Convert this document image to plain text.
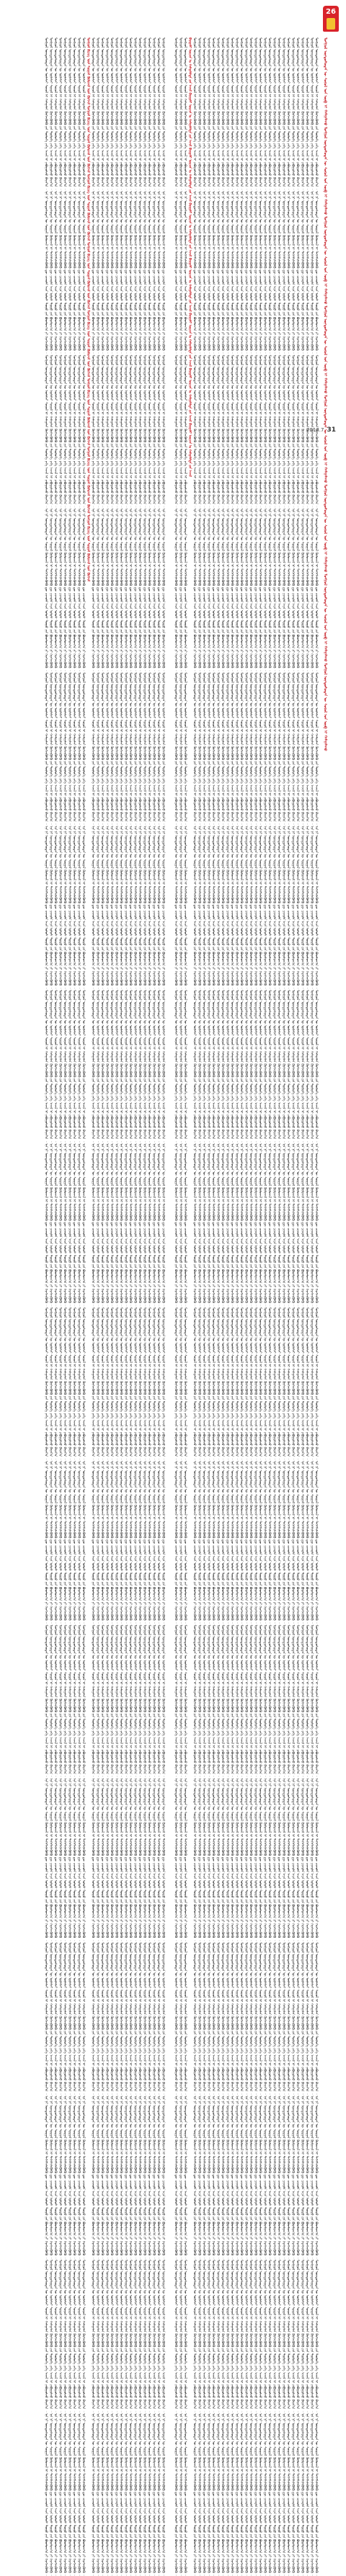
26
ᠮᠣᠩᠭᠣᠯ ᠦᠨᠳᠦᠰᠦᠲᠡᠨ ᠦ ᠰᠣᠶᠣᠯ ᠤᠨ ᠦᠪ ᠢ ᠬᠠᠮᠠᠭᠠᠯᠠᠬᠤ ᠮᠣᠩᠭᠣᠯ ᠦᠨᠳᠦᠰᠦᠲᠡᠨ ᠦ ᠰᠣᠶᠣᠯ ᠤᠨ ᠦᠪ ᠢ ᠬᠠᠮᠠᠭᠠᠯᠠᠬᠤ ᠮᠣᠩᠭᠣᠯ ᠦᠨᠳᠦᠰᠦᠲᠡᠨ ᠦ ᠰᠣᠶᠣᠯ ᠤᠨ ᠦᠪ ᠢ ᠬᠠᠮᠠᠭᠠᠯᠠᠬᠤ ᠮᠣᠩᠭᠣᠯ ᠦᠨᠳᠦᠰᠦᠲᠡᠨ ᠦ ᠰᠣᠶᠣᠯ ᠤᠨ ᠦᠪ ᠢ ᠬᠠᠮᠠᠭᠠᠯᠠᠬᠤ ᠮᠣᠩᠭᠣᠯ ᠦᠨᠳᠦᠰᠦᠲᠡᠨ ᠦ ᠰᠣᠶᠣᠯ ᠤᠨ ᠦᠪ ᠢ ᠬᠠᠮᠠᠭᠠᠯᠠᠬᠤ ᠮᠣᠩᠭᠣᠯ ᠦᠨᠳᠦᠰᠦᠲᠡᠨ ᠦ ᠰᠣᠶᠣᠯ ᠤᠨ ᠦᠪ ᠢ ᠬᠠᠮᠠᠭᠠᠯᠠᠬᠤ ᠮᠣᠩᠭᠣᠯ ᠦᠨᠳᠦᠰᠦᠲᠡᠨ ᠦ ᠰᠣᠶᠣᠯ ᠤᠨ ᠦᠪ ᠢ ᠬᠠᠮᠠᠭᠠᠯᠠᠬᠤ ᠮᠣᠩᠭᠣᠯ ᠦᠨᠳᠦᠰᠦᠲᠡᠨ ᠦ ᠰᠣᠶᠣᠯ ᠤᠨ ᠦᠪ ᠢ ᠬᠠᠮᠠᠭᠠᠯᠠᠬᠤ
ᠮᠣᠩᠭᠣᠯ ᠦᠨᠳᠦᠰᠦᠲᠡᠨ ᠦ ᠦᠯᠡᠮᠵᠢ ᠰᠣᠶᠣᠯ ᠢ ᠬᠠᠮᠠᠭᠠᠯᠠᠨ ᠬᠥᠭᠵᠢᠭᠦᠯᠬᠦ ᠶᠢᠨ ᠲᠥᠯᠦᠭᠡ ᠶᠡᠬᠡ ᠠᠵᠢᠯ ᠢ ᠶᠠᠪᠤᠭᠤᠯᠵᠤ ᠪᠠᠶᠢᠨ᠎ᠠ ᠃ ᠡᠨᠡ ᠨᠢ ᠦᠨᠳᠦᠰᠦᠲᠡᠨ ᠦ ᠰᠤᠷᠭᠠᠯ ᠬᠦᠮᠦᠵᠢᠯ ᠢ ᠳᠡᠭᠡᠭᠰᠢᠯᠡᠭᠦᠯᠬᠦ ᠳᠦ ᠴᠢᠬᠤᠯᠠ ᠠᠴᠠ ᠤᠯᠤᠰ ᠲᠥᠷᠦ ᠶᠢᠨ ᠪᠣᠳᠯᠣᠭ᠎ᠠ ᠶᠢ ᠬᠡᠷᠡᠭᠵᠢᠭᠦᠯᠬᠦ ᠃ ᠮᠣᠩᠭᠣᠯ ᠦᠨᠳᠦᠰᠦᠲᠡᠨ ᠦ ᠦᠯᠡᠮᠵᠢ ᠰᠣᠶᠣᠯ ᠢ ᠬᠠᠮᠠᠭᠠᠯᠠᠨ ᠬᠥᠭᠵᠢᠭᠦᠯᠬᠦ ᠶᠢᠨ ᠲᠥᠯᠦᠭᠡ ᠶᠡᠬᠡ ᠠᠵᠢᠯ ᠢ ᠶᠠᠪᠤᠭᠤᠯᠵᠤ ᠪᠠᠶᠢᠨ᠎ᠠ ᠃ ᠡᠨᠡ ᠨᠢ ᠦᠨᠳᠦᠰᠦᠲᠡᠨ ᠦ ᠰᠤᠷᠭᠠᠯ ᠬᠦᠮᠦᠵᠢᠯ ᠢ ᠳᠡᠭᠡᠭᠰᠢᠯᠡᠭᠦᠯᠬᠦ ᠳᠦ ᠴᠢᠬᠤᠯᠠ ᠠᠴᠠ ᠤᠯᠤᠰ ᠲᠥᠷᠦ ᠶᠢᠨ ᠪᠣᠳᠯᠣᠭ᠎ᠠ ᠶᠢ ᠬᠡᠷᠡᠭᠵᠢᠭᠦᠯᠬᠦ ᠃ ᠮᠣᠩᠭᠣᠯ ᠦᠨᠳᠦᠰᠦᠲᠡᠨ ᠦ ᠦᠯᠡᠮᠵᠢ ᠰᠣᠶᠣᠯ ᠢ ᠬᠠᠮᠠᠭᠠᠯᠠᠨ ᠬᠥᠭᠵᠢᠭᠦᠯᠬᠦ ᠶᠢᠨ ᠲᠥᠯᠦᠭᠡ ᠶᠡᠬᠡ ᠠᠵᠢᠯ ᠢ ᠶᠠᠪᠤᠭᠤᠯᠵᠤ ᠪᠠᠶᠢᠨ᠎ᠠ ᠃ ᠡᠨᠡ ᠨᠢ ᠦᠨᠳᠦᠰᠦᠲᠡᠨ ᠦ ᠰᠤᠷᠭᠠᠯ ᠬᠦᠮᠦᠵᠢᠯ ᠢ ᠳᠡᠭᠡᠭᠰᠢᠯᠡᠭᠦᠯᠬᠦ ᠳᠦ ᠴᠢᠬᠤᠯᠠ ᠠᠴᠠ ᠤᠯᠤᠰ ᠲᠥᠷᠦ ᠶᠢᠨ ᠪᠣᠳᠯᠣᠭ᠎ᠠ ᠶᠢ ᠬᠡᠷᠡᠭᠵᠢᠭᠦᠯᠬᠦ ᠃ ᠮᠣᠩᠭᠣᠯ ᠦᠨᠳᠦᠰᠦᠲᠡᠨ ᠦ ᠦᠯᠡᠮᠵᠢ ᠰᠣᠶᠣᠯ ᠢ ᠬᠠᠮᠠᠭᠠᠯᠠᠨ ᠬᠥᠭᠵᠢᠭᠦᠯᠬᠦ ᠶᠢᠨ ᠲᠥᠯᠦᠭᠡ ᠶᠡᠬᠡ ᠠᠵᠢᠯ ᠢ ᠶᠠᠪᠤᠭᠤᠯᠵᠤ ᠪᠠᠶᠢᠨ᠎ᠠ ᠃ ᠡᠨᠡ ᠨᠢ ᠦᠨᠳᠦᠰᠦᠲᠡᠨ ᠦ ᠰᠤᠷᠭᠠᠯ ᠬᠦᠮᠦᠵᠢᠯ ᠢ ᠳᠡᠭᠡᠭᠰᠢᠯᠡᠭᠦᠯᠬᠦ ᠳᠦ ᠴᠢᠬᠤᠯᠠ ᠠᠴᠠ ᠤᠯᠤᠰ ᠲᠥᠷᠦ ᠶᠢᠨ ᠪᠣᠳᠯᠣᠭ᠎ᠠ ᠶᠢ ᠬᠡᠷᠡᠭᠵᠢᠭᠦᠯᠬᠦ ᠃ ᠮᠣᠩᠭᠣᠯ ᠦᠨᠳᠦᠰᠦᠲᠡᠨ ᠦ ᠦᠯᠡᠮᠵᠢ ᠰᠣᠶᠣᠯ ᠢ ᠬᠠᠮᠠᠭᠠᠯᠠᠨ ᠬᠥᠭᠵᠢᠭᠦᠯᠬᠦ ᠶᠢᠨ ᠲᠥᠯᠦᠭᠡ ᠶᠡᠬᠡ ᠠᠵᠢᠯ ᠢ ᠶᠠᠪᠤᠭᠤᠯᠵᠤ ᠪᠠᠶᠢᠨ᠎ᠠ ᠃ ᠡᠨᠡ ᠨᠢ ᠦᠨᠳᠦᠰᠦᠲᠡᠨ ᠦ ᠰᠤᠷᠭᠠᠯ ᠬᠦᠮᠦᠵᠢᠯ ᠢ ᠳᠡᠭᠡᠭᠰᠢᠯᠡᠭᠦᠯᠬᠦ ᠳᠦ ᠴᠢᠬᠤᠯᠠ ᠠᠴᠠ ᠤᠯᠤᠰ ᠲᠥᠷᠦ ᠶᠢᠨ ᠪᠣᠳᠯᠣᠭ᠎ᠠ ᠶᠢ ᠬᠡᠷᠡᠭᠵᠢᠭᠦᠯᠬᠦ ᠃ ᠮᠣᠩᠭᠣᠯ ᠦᠨᠳᠦᠰᠦᠲᠡᠨ ᠦ ᠦᠯᠡᠮᠵᠢ ᠰᠣᠶᠣᠯ ᠢ ᠬᠠᠮᠠᠭᠠᠯᠠᠨ ᠬᠥᠭᠵᠢᠭᠦᠯᠬᠦ ᠶᠢᠨ ᠲᠥᠯᠦᠭᠡ ᠶᠡᠬᠡ ᠠᠵᠢᠯ ᠢ ᠶᠠᠪᠤᠭᠤᠯᠵᠤ ᠪᠠᠶᠢᠨ᠎ᠠ ᠃ ᠡᠨᠡ ᠨᠢ ᠦᠨᠳᠦᠰᠦᠲᠡᠨ ᠦ ᠰᠤᠷᠭᠠᠯ ᠬᠦᠮᠦᠵᠢᠯ ᠢ ᠳᠡᠭᠡᠭᠰᠢᠯᠡᠭᠦᠯᠬᠦ ᠳᠦ ᠴᠢᠬᠤᠯᠠ ᠠᠴᠠ ᠤᠯᠤᠰ ᠲᠥᠷᠦ ᠶᠢᠨ ᠪᠣᠳᠯᠣᠭ᠎ᠠ ᠶᠢ ᠬᠡᠷᠡᠭᠵᠢᠭᠦᠯᠬᠦ ᠃ ᠮᠣᠩᠭᠣᠯ ᠦᠨᠳᠦᠰᠦᠲᠡᠨ ᠦ ᠦᠯᠡᠮᠵᠢ ᠰᠣᠶᠣᠯ ᠢ ᠬᠠᠮᠠᠭᠠᠯᠠᠨ ᠬᠥᠭᠵᠢᠭᠦᠯᠬᠦ ᠶᠢᠨ ᠲᠥᠯᠦᠭᠡ ᠶᠡᠬᠡ ᠠᠵᠢᠯ ᠢ ᠶᠠᠪᠤᠭᠤᠯᠵᠤ ᠪᠠᠶᠢᠨ᠎ᠠ ᠃ ᠡᠨᠡ ᠨᠢ ᠦᠨᠳᠦᠰᠦᠲᠡᠨ ᠦ ᠰᠤᠷᠭᠠᠯ ᠬᠦᠮᠦᠵᠢᠯ ᠢ ᠳᠡᠭᠡᠭᠰᠢᠯᠡᠭᠦᠯᠬᠦ ᠳᠦ ᠴᠢᠬᠤᠯᠠ ᠠᠴᠠ ᠤᠯᠤᠰ ᠲᠥᠷᠦ ᠶᠢᠨ ᠪᠣᠳᠯᠣᠭ᠎ᠠ ᠶᠢ ᠬᠡᠷᠡᠭᠵᠢᠭᠦᠯᠬᠦ ᠃ ᠮᠣᠩᠭᠣᠯ ᠦᠨᠳᠦᠰᠦᠲᠡᠨ ᠦ ᠦᠯᠡᠮᠵᠢ ᠰᠣᠶᠣᠯ ᠢ ᠬᠠᠮᠠᠭᠠᠯᠠᠨ ᠬᠥᠭᠵᠢᠭᠦᠯᠬᠦ ᠶᠢᠨ ᠲᠥᠯᠦᠭᠡ ᠶᠡᠬᠡ ᠠᠵᠢᠯ ᠢ ᠶᠠᠪᠤᠭᠤᠯᠵᠤ ᠪᠠᠶᠢᠨ᠎ᠠ ᠃ ᠡᠨᠡ ᠨᠢ ᠦᠨᠳᠦᠰᠦᠲᠡᠨ ᠦ ᠰᠤᠷᠭᠠᠯ ᠬᠦᠮᠦᠵᠢᠯ ᠢ ᠳᠡᠭᠡᠭᠰᠢᠯᠡᠭᠦᠯᠬᠦ ᠳᠦ ᠴᠢᠬᠤᠯᠠ ᠠᠴᠠ ᠤᠯᠤᠰ ᠲᠥᠷᠦ ᠶᠢᠨ ᠪᠣᠳᠯᠣᠭ᠎ᠠ ᠶᠢ ᠬᠡᠷᠡᠭᠵᠢᠭᠦᠯᠬᠦ ᠃ ᠮᠣᠩᠭᠣᠯ ᠦᠨᠳᠦᠰᠦᠲᠡᠨ ᠦ ᠦᠯᠡᠮᠵᠢ ᠰᠣᠶᠣᠯ ᠢ ᠬᠠᠮᠠᠭᠠᠯᠠᠨ ᠬᠥᠭᠵᠢᠭᠦᠯᠬᠦ ᠶᠢᠨ ᠲᠥᠯᠦᠭᠡ ᠶᠡᠬᠡ ᠠᠵᠢᠯ ᠢ ᠶᠠᠪᠤᠭᠤᠯᠵᠤ ᠪᠠᠶᠢᠨ᠎ᠠ ᠃ ᠡᠨᠡ ᠨᠢ ᠦᠨᠳᠦᠰᠦᠲᠡᠨ ᠦ ᠰᠤᠷᠭᠠᠯ ᠬᠦᠮᠦᠵᠢᠯ ᠢ ᠳᠡᠭᠡᠭᠰᠢᠯᠡᠭᠦᠯᠬᠦ ᠳᠦ ᠴᠢᠬᠤᠯᠠ ᠠᠴᠠ ᠤᠯᠤᠰ ᠲᠥᠷᠦ ᠶᠢᠨ ᠪᠣᠳᠯᠣᠭ᠎ᠠ ᠶᠢ ᠬᠡᠷᠡᠭᠵᠢᠭᠦᠯᠬᠦ ᠃ ᠮᠣᠩᠭᠣᠯ ᠦᠨᠳᠦᠰᠦᠲᠡᠨ ᠦ ᠦᠯᠡᠮᠵᠢ ᠰᠣᠶᠣᠯ ᠢ ᠬᠠᠮᠠᠭᠠᠯᠠᠨ ᠬᠥᠭᠵᠢᠭᠦᠯᠬᠦ ᠶᠢᠨ ᠲᠥᠯᠦᠭᠡ ᠶᠡᠬᠡ ᠠᠵᠢᠯ ᠢ ᠶᠠᠪᠤᠭᠤᠯᠵᠤ ᠪᠠᠶᠢᠨ᠎ᠠ ᠃ ᠡᠨᠡ ᠨᠢ ᠦᠨᠳᠦᠰᠦᠲᠡᠨ ᠦ ᠰᠤᠷᠭᠠᠯ ᠬᠦᠮᠦᠵᠢᠯ ᠢ ᠳᠡᠭᠡᠭᠰᠢᠯᠡᠭᠦᠯᠬᠦ ᠳᠦ ᠴᠢᠬᠤᠯᠠ ᠠᠴᠠ ᠤᠯᠤᠰ ᠲᠥᠷᠦ ᠶᠢᠨ ᠪᠣᠳᠯᠣᠭ᠎ᠠ ᠶᠢ ᠬᠡᠷᠡᠭᠵᠢᠭᠦᠯᠬᠦ ᠃ ᠮᠣᠩᠭᠣᠯ ᠦᠨᠳᠦᠰᠦᠲᠡᠨ ᠦ ᠦᠯᠡᠮᠵᠢ ᠰᠣᠶᠣᠯ ᠢ ᠬᠠᠮᠠᠭᠠᠯᠠᠨ ᠬᠥᠭᠵᠢᠭᠦᠯᠬᠦ ᠶᠢᠨ ᠲᠥᠯᠦᠭᠡ ᠶᠡᠬᠡ ᠠᠵᠢᠯ ᠢ ᠶᠠᠪᠤᠭᠤᠯᠵᠤ ᠪᠠᠶᠢᠨ᠎ᠠ ᠃ ᠡᠨᠡ ᠨᠢ ᠦᠨᠳᠦᠰᠦᠲᠡᠨ ᠦ ᠰᠤᠷᠭᠠᠯ ᠬᠦᠮᠦᠵᠢᠯ ᠢ ᠳᠡᠭᠡᠭᠰᠢᠯᠡᠭᠦᠯᠬᠦ ᠳᠦ ᠴᠢᠬᠤᠯᠠ ᠠᠴᠠ ᠤᠯᠤᠰ ᠲᠥᠷᠦ ᠶᠢᠨ ᠪᠣᠳᠯᠣᠭ᠎ᠠ ᠶᠢ ᠬᠡᠷᠡᠭᠵᠢᠭᠦᠯᠬᠦ ᠃ ᠮᠣᠩᠭᠣᠯ ᠦᠨᠳᠦᠰᠦᠲᠡᠨ ᠦ ᠦᠯᠡᠮᠵᠢ ᠰᠣᠶᠣᠯ ᠢ ᠬᠠᠮᠠᠭᠠᠯᠠᠨ ᠬᠥᠭᠵᠢᠭᠦᠯᠬᠦ ᠶᠢᠨ ᠲᠥᠯᠦᠭᠡ ᠶᠡᠬᠡ ᠠᠵᠢᠯ ᠢ ᠶᠠᠪᠤᠭᠤᠯᠵᠤ ᠪᠠᠶᠢᠨ᠎ᠠ ᠃ ᠡᠨᠡ ᠨᠢ ᠦᠨᠳᠦᠰᠦᠲᠡᠨ ᠦ ᠰᠤᠷᠭᠠᠯ ᠬᠦᠮᠦᠵᠢᠯ ᠢ ᠳᠡᠭᠡᠭᠰᠢᠯᠡᠭᠦᠯᠬᠦ ᠳᠦ ᠴᠢᠬᠤᠯᠠ ᠠᠴᠠ ᠤᠯᠤᠰ ᠲᠥᠷᠦ ᠶᠢᠨ ᠪᠣᠳᠯᠣᠭ᠎ᠠ ᠶᠢ ᠬᠡᠷᠡᠭᠵᠢᠭᠦᠯᠬᠦ ᠃ ᠮᠣᠩᠭᠣᠯ ᠦᠨᠳᠦᠰᠦᠲᠡᠨ ᠦ ᠦᠯᠡᠮᠵᠢ ᠰᠣᠶᠣᠯ ᠢ ᠬᠠᠮᠠᠭᠠᠯᠠᠨ ᠬᠥᠭᠵᠢᠭᠦᠯᠬᠦ ᠶᠢᠨ ᠲᠥᠯᠦᠭᠡ ᠶᠡᠬᠡ ᠠᠵᠢᠯ ᠢ ᠶᠠᠪᠤᠭᠤᠯᠵᠤ ᠪᠠᠶᠢᠨ᠎ᠠ ᠃ ᠡᠨᠡ ᠨᠢ ᠦᠨᠳᠦᠰᠦᠲᠡᠨ ᠦ ᠰᠤᠷᠭᠠᠯ ᠬᠦᠮᠦᠵᠢᠯ ᠢ ᠳᠡᠭᠡᠭᠰᠢᠯᠡᠭᠦᠯᠬᠦ ᠳᠦ ᠴᠢᠬᠤᠯᠠ ᠠᠴᠠ ᠤᠯᠤᠰ ᠲᠥᠷᠦ ᠶᠢᠨ ᠪᠣᠳᠯᠣᠭ᠎ᠠ ᠶᠢ ᠬᠡᠷᠡᠭᠵᠢᠭᠦᠯᠬᠦ ᠃ ᠮᠣᠩᠭᠣᠯ ᠦᠨᠳᠦᠰᠦᠲᠡᠨ ᠦ ᠦᠯᠡᠮᠵᠢ ᠰᠣᠶᠣᠯ ᠢ ᠬᠠᠮᠠᠭᠠᠯᠠᠨ ᠬᠥᠭᠵᠢᠭᠦᠯᠬᠦ ᠶᠢᠨ ᠲᠥᠯᠦᠭᠡ ᠶᠡᠬᠡ ᠠᠵᠢᠯ ᠢ ᠶᠠᠪᠤᠭᠤᠯᠵᠤ ᠪᠠᠶᠢᠨ᠎ᠠ ᠃ ᠡᠨᠡ ᠨᠢ ᠦᠨᠳᠦᠰᠦᠲᠡᠨ ᠦ ᠰᠤᠷᠭᠠᠯ ᠬᠦᠮᠦᠵᠢᠯ ᠢ ᠳᠡᠭᠡᠭᠰᠢᠯᠡᠭᠦᠯᠬᠦ ᠳᠦ ᠴᠢᠬᠤᠯᠠ ᠠᠴᠠ ᠤᠯᠤᠰ ᠲᠥᠷᠦ ᠶᠢᠨ ᠪᠣᠳᠯᠣᠭ᠎ᠠ ᠶᠢ ᠬᠡᠷᠡᠭᠵᠢᠭᠦᠯᠬᠦ ᠃ ᠮᠣᠩᠭᠣᠯ ᠦᠨᠳᠦᠰᠦᠲᠡᠨ ᠦ ᠦᠯᠡᠮᠵᠢ ᠰᠣᠶᠣᠯ ᠢ ᠬᠠᠮᠠᠭᠠᠯᠠᠨ ᠬᠥᠭᠵᠢᠭᠦᠯᠬᠦ ᠶᠢᠨ ᠲᠥᠯᠦᠭᠡ ᠶᠡᠬᠡ ᠠᠵᠢᠯ ᠢ ᠶᠠᠪᠤᠭᠤᠯᠵᠤ ᠪᠠᠶᠢᠨ᠎ᠠ ᠃ ᠡᠨᠡ ᠨᠢ ᠦᠨᠳᠦᠰᠦᠲᠡᠨ ᠦ ᠰᠤᠷᠭᠠᠯ ᠬᠦᠮᠦᠵᠢᠯ ᠢ ᠳᠡᠭᠡᠭᠰᠢᠯᠡᠭᠦᠯᠬᠦ ᠳᠦ ᠴᠢᠬᠤᠯᠠ ᠠᠴᠠ ᠤᠯᠤᠰ ᠲᠥᠷᠦ ᠶᠢᠨ ᠪᠣᠳᠯᠣᠭ᠎ᠠ ᠶᠢ ᠬᠡᠷᠡᠭᠵᠢᠭᠦᠯᠬᠦ ᠃ ᠮᠣᠩᠭᠣᠯ ᠦᠨᠳᠦᠰᠦᠲᠡᠨ ᠦ ᠦᠯᠡᠮᠵᠢ ᠰᠣᠶᠣᠯ ᠢ ᠬᠠᠮᠠᠭᠠᠯᠠᠨ ᠬᠥᠭᠵᠢᠭᠦᠯᠬᠦ ᠶᠢᠨ ᠲᠥᠯᠦᠭᠡ ᠶᠡᠬᠡ ᠠᠵᠢᠯ ᠢ ᠶᠠᠪᠤᠭᠤᠯᠵᠤ ᠪᠠᠶᠢᠨ᠎ᠠ ᠃ ᠡᠨᠡ ᠨᠢ ᠦᠨᠳᠦᠰᠦᠲᠡᠨ ᠦ ᠰᠤᠷᠭᠠᠯ ᠬᠦᠮᠦᠵᠢᠯ ᠢ ᠳᠡᠭᠡᠭᠰᠢᠯᠡᠭᠦᠯᠬᠦ ᠳᠦ ᠴᠢᠬᠤᠯᠠ ᠠᠴᠠ ᠤᠯᠤᠰ ᠲᠥᠷᠦ ᠶᠢᠨ ᠪᠣᠳᠯᠣᠭ᠎ᠠ ᠶᠢ ᠬᠡᠷᠡᠭᠵᠢᠭᠦᠯᠬᠦ ᠃ ᠮᠣᠩᠭᠣᠯ ᠦᠨᠳᠦᠰᠦᠲᠡᠨ ᠦ ᠦᠯᠡᠮᠵᠢ ᠰᠣᠶᠣᠯ ᠢ ᠬᠠᠮᠠᠭᠠᠯᠠᠨ ᠬᠥᠭᠵᠢᠭᠦᠯᠬᠦ ᠶᠢᠨ ᠲᠥᠯᠦᠭᠡ ᠶᠡᠬᠡ ᠠᠵᠢᠯ ᠢ ᠶᠠᠪᠤᠭᠤᠯᠵᠤ ᠪᠠᠶᠢᠨ᠎ᠠ ᠃ ᠡᠨᠡ ᠨᠢ ᠦᠨᠳᠦᠰᠦᠲᠡᠨ ᠦ ᠰᠤᠷᠭᠠᠯ ᠬᠦᠮᠦᠵᠢᠯ ᠢ ᠳᠡᠭᠡᠭᠰᠢᠯᠡᠭᠦᠯᠬᠦ ᠳᠦ ᠴᠢᠬᠤᠯᠠ ᠠᠴᠠ ᠤᠯᠤᠰ ᠲᠥᠷᠦ ᠶᠢᠨ ᠪᠣᠳᠯᠣᠭ᠎ᠠ ᠶᠢ ᠬᠡᠷᠡᠭᠵᠢᠭᠦᠯᠬᠦ ᠃ ᠮᠣᠩᠭᠣᠯ ᠦᠨᠳᠦᠰᠦᠲᠡᠨ ᠦ ᠦᠯᠡᠮᠵᠢ ᠰᠣᠶᠣᠯ ᠢ ᠬᠠᠮᠠᠭᠠᠯᠠᠨ ᠬᠥᠭᠵᠢᠭᠦᠯᠬᠦ ᠶᠢᠨ ᠲᠥᠯᠦᠭᠡ ᠶᠡᠬᠡ ᠠᠵᠢᠯ ᠢ ᠶᠠᠪᠤᠭᠤᠯᠵᠤ ᠪᠠᠶᠢᠨ᠎ᠠ ᠃ ᠡᠨᠡ ᠨᠢ ᠦᠨᠳᠦᠰᠦᠲᠡᠨ ᠦ ᠰᠤᠷᠭᠠᠯ ᠬᠦᠮᠦᠵᠢᠯ ᠢ ᠳᠡᠭᠡᠭᠰᠢᠯᠡᠭᠦᠯᠬᠦ ᠳᠦ ᠴᠢᠬᠤᠯᠠ ᠠᠴᠠ ᠤᠯᠤᠰ ᠲᠥᠷᠦ ᠶᠢᠨ ᠪᠣᠳᠯᠣᠭ᠎ᠠ ᠶᠢ ᠬᠡᠷᠡᠭᠵᠢᠭᠦᠯᠬᠦ ᠃ ᠮᠣᠩᠭᠣᠯ ᠦᠨᠳᠦᠰᠦᠲᠡᠨ ᠦ ᠦᠯᠡᠮᠵᠢ ᠰᠣᠶᠣᠯ ᠢ ᠬᠠᠮᠠᠭᠠᠯᠠᠨ ᠬᠥᠭᠵᠢᠭᠦᠯᠬᠦ ᠶᠢᠨ ᠲᠥᠯᠦᠭᠡ ᠶᠡᠬᠡ ᠠᠵᠢᠯ ᠢ ᠶᠠᠪᠤᠭᠤᠯᠵᠤ ᠪᠠᠶᠢᠨ᠎ᠠ ᠃ ᠡᠨᠡ ᠨᠢ ᠦᠨᠳᠦᠰᠦᠲᠡᠨ ᠦ ᠰᠤᠷᠭᠠᠯ ᠬᠦᠮᠦᠵᠢᠯ ᠢ ᠳᠡᠭᠡᠭᠰᠢᠯᠡᠭᠦᠯᠬᠦ ᠳᠦ ᠴᠢᠬᠤᠯᠠ ᠠᠴᠠ ᠤᠯᠤᠰ ᠲᠥᠷᠦ ᠶᠢᠨ ᠪᠣᠳᠯᠣᠭ᠎ᠠ ᠶᠢ ᠬᠡᠷᠡᠭᠵᠢᠭᠦᠯᠬᠦ ᠃ ᠮᠣᠩᠭᠣᠯ ᠦᠨᠳᠦᠰᠦᠲᠡᠨ ᠦ ᠦᠯᠡᠮᠵᠢ ᠰᠣᠶᠣᠯ ᠢ ᠬᠠᠮᠠᠭᠠᠯᠠᠨ ᠬᠥᠭᠵᠢᠭᠦᠯᠬᠦ ᠶᠢᠨ ᠲᠥᠯᠦᠭᠡ ᠶᠡᠬᠡ ᠠᠵᠢᠯ ᠢ ᠶᠠᠪᠤᠭᠤᠯᠵᠤ ᠪᠠᠶᠢᠨ᠎ᠠ ᠃ ᠡᠨᠡ ᠨᠢ ᠦᠨᠳᠦᠰᠦᠲᠡᠨ ᠦ ᠰᠤᠷᠭᠠᠯ ᠬᠦᠮᠦᠵᠢᠯ ᠢ ᠳᠡᠭᠡᠭᠰᠢᠯᠡᠭᠦᠯᠬᠦ ᠳᠦ ᠴᠢᠬᠤᠯᠠ ᠠᠴᠠ ᠤᠯᠤᠰ ᠲᠥᠷᠦ ᠶᠢᠨ ᠪᠣᠳᠯᠣᠭ᠎ᠠ ᠶᠢ ᠬᠡᠷᠡᠭᠵᠢᠭᠦᠯᠬᠦ ᠃ ᠮᠣᠩᠭᠣᠯ ᠦᠨᠳᠦᠰᠦᠲᠡᠨ ᠦ ᠦᠯᠡᠮᠵᠢ ᠰᠣᠶᠣᠯ ᠢ ᠬᠠᠮᠠᠭᠠᠯᠠᠨ ᠬᠥᠭᠵᠢᠭᠦᠯᠬᠦ ᠶᠢᠨ ᠲᠥᠯᠦᠭᠡ ᠶᠡᠬᠡ ᠠᠵᠢᠯ ᠢ ᠶᠠᠪᠤᠭᠤᠯᠵᠤ ᠪᠠᠶᠢᠨ᠎ᠠ ᠃ ᠡᠨᠡ ᠨᠢ ᠦᠨᠳᠦᠰᠦᠲᠡᠨ ᠦ ᠰᠤᠷᠭᠠᠯ ᠬᠦᠮᠦᠵᠢᠯ ᠢ ᠳᠡᠭᠡᠭᠰᠢᠯᠡᠭᠦᠯᠬᠦ ᠳᠦ ᠴᠢᠬᠤᠯᠠ ᠠᠴᠠ ᠤᠯᠤᠰ ᠲᠥᠷᠦ ᠶᠢᠨ ᠪᠣᠳᠯᠣᠭ᠎ᠠ ᠶᠢ ᠬᠡᠷᠡᠭᠵᠢᠭᠦᠯᠬᠦ ᠃ ᠮᠣᠩᠭᠣᠯ ᠦᠨᠳᠦᠰᠦᠲᠡᠨ ᠦ ᠦᠯᠡᠮᠵᠢ ᠰᠣᠶᠣᠯ ᠢ ᠬᠠᠮᠠᠭᠠᠯᠠᠨ ᠬᠥᠭᠵᠢᠭᠦᠯᠬᠦ ᠶᠢᠨ ᠲᠥᠯᠦᠭᠡ ᠶᠡᠬᠡ ᠠᠵᠢᠯ ᠢ ᠶᠠᠪᠤᠭᠤᠯᠵᠤ ᠪᠠᠶᠢᠨ᠎ᠠ ᠃ ᠡᠨᠡ ᠨᠢ ᠦᠨᠳᠦᠰᠦᠲᠡᠨ ᠦ ᠰᠤᠷᠭᠠᠯ ᠬᠦᠮᠦᠵᠢᠯ ᠢ ᠳᠡᠭᠡᠭᠰᠢᠯᠡᠭᠦᠯᠬᠦ ᠳᠦ ᠴᠢᠬᠤᠯᠠ ᠠᠴᠠ ᠤᠯᠤᠰ ᠲᠥᠷᠦ ᠶᠢᠨ ᠪᠣᠳᠯᠣᠭ᠎ᠠ ᠶᠢ ᠬᠡᠷᠡᠭᠵᠢᠭᠦᠯᠬᠦ ᠃ ᠮᠣᠩᠭᠣᠯ ᠦᠨᠳᠦᠰᠦᠲᠡᠨ ᠦ ᠦᠯᠡᠮᠵᠢ ᠰᠣᠶᠣᠯ ᠢ ᠬᠠᠮᠠᠭᠠᠯᠠᠨ ᠬᠥᠭᠵᠢᠭᠦᠯᠬᠦ ᠶᠢᠨ ᠲᠥᠯᠦᠭᠡ ᠶᠡᠬᠡ ᠠᠵᠢᠯ ᠢ ᠶᠠᠪᠤᠭᠤᠯᠵᠤ ᠪᠠᠶᠢᠨ᠎ᠠ ᠃ ᠡᠨᠡ ᠨᠢ ᠦᠨᠳᠦᠰᠦᠲᠡᠨ ᠦ ᠰᠤᠷᠭᠠᠯ ᠬᠦᠮᠦᠵᠢᠯ ᠢ ᠳᠡᠭᠡᠭᠰᠢᠯᠡᠭᠦᠯᠬᠦ ᠳᠦ ᠴᠢᠬᠤᠯᠠ ᠠᠴᠠ ᠤᠯᠤᠰ ᠲᠥᠷᠦ ᠶᠢᠨ ᠪᠣᠳᠯᠣᠭ᠎ᠠ ᠶᠢ ᠬᠡᠷᠡᠭᠵᠢᠭᠦᠯᠬᠦ ᠃ ᠮᠣᠩᠭᠣᠯ ᠦᠨᠳᠦᠰᠦᠲᠡᠨ ᠦ ᠦᠯᠡᠮᠵᠢ ᠰᠣᠶᠣᠯ ᠢ ᠬᠠᠮᠠᠭᠠᠯᠠᠨ ᠬᠥᠭᠵᠢᠭᠦᠯᠬᠦ ᠶᠢᠨ ᠲᠥᠯᠦᠭᠡ ᠶᠡᠬᠡ ᠠᠵᠢᠯ ᠢ ᠶᠠᠪᠤᠭᠤᠯᠵᠤ ᠪᠠᠶᠢᠨ᠎ᠠ ᠃ ᠡᠨᠡ ᠨᠢ ᠦᠨᠳᠦᠰᠦᠲᠡᠨ ᠦ ᠰᠤᠷᠭᠠᠯ ᠬᠦᠮᠦᠵᠢᠯ ᠢ ᠳᠡᠭᠡᠭᠰᠢᠯᠡᠭᠦᠯᠬᠦ ᠳᠦ ᠴᠢᠬᠤᠯᠠ ᠠᠴᠠ ᠤᠯᠤᠰ ᠲᠥᠷᠦ ᠶᠢᠨ ᠪᠣᠳᠯᠣᠭ᠎ᠠ ᠶᠢ ᠬᠡᠷᠡᠭᠵᠢᠭᠦᠯᠬᠦ ᠃ ᠮᠣᠩᠭᠣᠯ ᠦᠨᠳᠦᠰᠦᠲᠡᠨ ᠦ ᠦᠯᠡᠮᠵᠢ ᠰᠣᠶᠣᠯ ᠢ ᠬᠠᠮᠠᠭᠠᠯᠠᠨ ᠬᠥᠭᠵᠢᠭᠦᠯᠬᠦ ᠶᠢᠨ ᠲᠥᠯᠦᠭᠡ ᠶᠡᠬᠡ ᠠᠵᠢᠯ ᠢ ᠶᠠᠪᠤᠭᠤᠯᠵᠤ ᠪᠠᠶᠢᠨ᠎ᠠ ᠃ ᠡᠨᠡ ᠨᠢ ᠦᠨᠳᠦᠰᠦᠲᠡᠨ ᠦ ᠰᠤᠷᠭᠠᠯ ᠬᠦᠮᠦᠵᠢᠯ ᠢ ᠳᠡᠭᠡᠭᠰᠢᠯᠡᠭᠦᠯᠬᠦ ᠳᠦ ᠴᠢᠬᠤᠯᠠ ᠠᠴᠠ ᠤᠯᠤᠰ ᠲᠥᠷᠦ ᠶᠢᠨ ᠪᠣᠳᠯᠣᠭ᠎ᠠ ᠶᠢ ᠬᠡᠷᠡᠭᠵᠢᠭᠦᠯᠬᠦ ᠃ ᠮᠣᠩᠭᠣᠯ ᠦᠨᠳᠦᠰᠦᠲᠡᠨ ᠦ ᠦᠯᠡᠮᠵᠢ ᠰᠣᠶᠣᠯ ᠢ ᠬᠠᠮᠠᠭᠠᠯᠠᠨ ᠬᠥᠭᠵᠢᠭᠦᠯᠬᠦ ᠶᠢᠨ ᠲᠥᠯᠦᠭᠡ ᠶᠡᠬᠡ ᠠᠵᠢᠯ ᠢ ᠶᠠᠪᠤᠭᠤᠯᠵᠤ ᠪᠠᠶᠢᠨ᠎ᠠ ᠃ ᠡᠨᠡ ᠨᠢ ᠦᠨᠳᠦᠰᠦᠲᠡᠨ ᠦ ᠰᠤᠷᠭᠠᠯ ᠬᠦᠮᠦᠵᠢᠯ ᠢ ᠳᠡᠭᠡᠭᠰᠢᠯᠡᠭᠦᠯᠬᠦ ᠳᠦ ᠴᠢᠬᠤᠯᠠ ᠠᠴᠠ ᠤᠯᠤᠰ ᠲᠥᠷᠦ ᠶᠢᠨ ᠪᠣᠳᠯᠣᠭ᠎ᠠ ᠶᠢ ᠬᠡᠷᠡᠭᠵᠢᠭᠦᠯᠬᠦ ᠃ ᠮᠣᠩᠭᠣᠯ ᠦᠨᠳᠦᠰᠦᠲᠡᠨ ᠦ ᠦᠯᠡᠮᠵᠢ ᠰᠣᠶᠣᠯ ᠢ ᠬᠠᠮᠠᠭᠠᠯᠠᠨ ᠬᠥᠭᠵᠢᠭᠦᠯᠬᠦ ᠶᠢᠨ ᠲᠥᠯᠦᠭᠡ ᠶᠡᠬᠡ ᠠᠵᠢᠯ ᠢ ᠶᠠᠪᠤᠭᠤᠯᠵᠤ ᠪᠠᠶᠢᠨ᠎ᠠ ᠃ ᠡᠨᠡ ᠨᠢ ᠦᠨᠳᠦᠰᠦᠲᠡᠨ ᠦ ᠰᠤᠷᠭᠠᠯ ᠬᠦᠮᠦᠵᠢᠯ ᠢ ᠳᠡᠭᠡᠭᠰᠢᠯᠡᠭᠦᠯᠬᠦ ᠳᠦ ᠴᠢᠬᠤᠯᠠ ᠠᠴᠠ ᠤᠯᠤᠰ ᠲᠥᠷᠦ ᠶᠢᠨ ᠪᠣᠳᠯᠣᠭ᠎ᠠ ᠶᠢ ᠬᠡᠷᠡᠭᠵᠢᠭᠦᠯᠬᠦ ᠃ ᠮᠣᠩᠭᠣᠯ ᠦᠨᠳᠦᠰᠦᠲᠡᠨ ᠦ ᠦᠯᠡᠮᠵᠢ ᠰᠣᠶᠣᠯ ᠢ ᠬᠠᠮᠠᠭᠠᠯᠠᠨ ᠬᠥᠭᠵᠢᠭᠦᠯᠬᠦ ᠶᠢᠨ ᠲᠥᠯᠦᠭᠡ ᠶᠡᠬᠡ ᠠᠵᠢᠯ ᠢ ᠶᠠᠪᠤᠭᠤᠯᠵᠤ ᠪᠠᠶᠢᠨ᠎ᠠ ᠃ ᠡᠨᠡ ᠨᠢ ᠦᠨᠳᠦᠰᠦᠲᠡᠨ ᠦ ᠰᠤᠷᠭᠠᠯ ᠬᠦᠮᠦᠵᠢᠯ ᠢ ᠳᠡᠭᠡᠭᠰᠢᠯᠡᠭᠦᠯᠬᠦ ᠳᠦ ᠴᠢᠬᠤᠯᠠ ᠠᠴᠠ ᠤᠯᠤᠰ ᠲᠥᠷᠦ ᠶᠢᠨ ᠪᠣᠳᠯᠣᠭ᠎ᠠ ᠶᠢ ᠬᠡᠷᠡᠭᠵᠢᠭᠦᠯᠬᠦ ᠃ ᠮᠣᠩᠭᠣᠯ ᠦᠨᠳᠦᠰᠦᠲᠡᠨ ᠦ ᠦᠯᠡᠮᠵᠢ ᠰᠣᠶᠣᠯ ᠢ ᠬᠠᠮᠠᠭᠠᠯᠠᠨ ᠬᠥᠭᠵᠢᠭᠦᠯᠬᠦ ᠶᠢᠨ ᠲᠥᠯᠦᠭᠡ ᠶᠡᠬᠡ ᠠᠵᠢᠯ ᠢ ᠶᠠᠪᠤᠭᠤᠯᠵᠤ ᠪᠠᠶᠢᠨ᠎ᠠ ᠃ ᠡᠨᠡ ᠨᠢ ᠦᠨᠳᠦᠰᠦᠲᠡᠨ ᠦ ᠰᠤᠷᠭᠠᠯ ᠬᠦᠮᠦᠵᠢᠯ ᠢ ᠳᠡᠭᠡᠭᠰᠢᠯᠡᠭᠦᠯᠬᠦ ᠳᠦ ᠴᠢᠬᠤᠯᠠ ᠠᠴᠠ ᠤᠯᠤᠰ ᠲᠥᠷᠦ ᠶᠢᠨ ᠪᠣᠳᠯᠣᠭ᠎ᠠ ᠶᠢ ᠬᠡᠷᠡᠭᠵᠢᠭᠦᠯᠬᠦ ᠃ ᠮᠣᠩᠭᠣᠯ ᠦᠨᠳᠦᠰᠦᠲᠡᠨ ᠦ ᠦᠯᠡᠮᠵᠢ ᠰᠣᠶᠣᠯ ᠢ ᠬᠠᠮᠠᠭᠠᠯᠠᠨ ᠬᠥᠭᠵᠢᠭᠦᠯᠬᠦ ᠶᠢᠨ ᠲᠥᠯᠦᠭᠡ ᠶᠡᠬᠡ ᠠᠵᠢᠯ ᠢ ᠶᠠᠪᠤᠭᠤᠯᠵᠤ ᠪᠠᠶᠢᠨ᠎ᠠ ᠃ ᠡᠨᠡ ᠨᠢ ᠦᠨᠳᠦᠰᠦᠲᠡᠨ ᠦ ᠰᠤᠷᠭᠠᠯ ᠬᠦᠮᠦᠵᠢᠯ ᠢ ᠳᠡᠭᠡᠭᠰᠢᠯᠡᠭᠦᠯᠬᠦ ᠳᠦ ᠴᠢᠬᠤᠯᠠ ᠠᠴᠠ ᠤᠯᠤᠰ ᠲᠥᠷᠦ ᠶᠢᠨ ᠪᠣᠳᠯᠣᠭ᠎ᠠ ᠶᠢ ᠬᠡᠷᠡᠭᠵᠢᠭᠦᠯᠬᠦ ᠃ ᠮᠣᠩᠭᠣᠯ ᠦᠨᠳᠦᠰᠦᠲᠡᠨ ᠦ ᠦᠯᠡᠮᠵᠢ ᠰᠣᠶᠣᠯ ᠢ ᠬᠠᠮᠠᠭᠠᠯᠠᠨ ᠬᠥᠭᠵᠢᠭᠦᠯᠬᠦ ᠶᠢᠨ ᠲᠥᠯᠦᠭᠡ ᠶᠡᠬᠡ ᠠᠵᠢᠯ ᠢ ᠶᠠᠪᠤᠭᠤᠯᠵᠤ ᠪᠠᠶᠢᠨ᠎ᠠ ᠃ ᠡᠨᠡ ᠨᠢ ᠦᠨᠳᠦᠰᠦᠲᠡᠨ ᠦ ᠰᠤᠷᠭᠠᠯ ᠬᠦᠮᠦᠵᠢᠯ ᠢ ᠳᠡᠭᠡᠭᠰᠢᠯᠡᠭᠦᠯᠬᠦ ᠳᠦ ᠴᠢᠬᠤᠯᠠ ᠠᠴᠠ ᠤᠯᠤᠰ ᠲᠥᠷᠦ ᠶᠢᠨ ᠪᠣᠳᠯᠣᠭ᠎ᠠ ᠶᠢ ᠬᠡᠷᠡᠭᠵᠢᠭᠦᠯᠬᠦ ᠃ ᠮᠣᠩᠭᠣᠯ ᠦᠨᠳᠦᠰᠦᠲᠡᠨ ᠦ ᠦᠯᠡᠮᠵᠢ ᠰᠣᠶᠣᠯ ᠢ ᠬᠠᠮᠠᠭᠠᠯᠠᠨ ᠬᠥᠭᠵᠢᠭᠦᠯᠬᠦ ᠶᠢᠨ ᠲᠥᠯᠦᠭᠡ ᠶᠡᠬᠡ ᠠᠵᠢᠯ ᠢ ᠶᠠᠪᠤᠭᠤᠯᠵᠤ ᠪᠠᠶᠢᠨ᠎ᠠ ᠃ ᠡᠨᠡ ᠨᠢ ᠦᠨᠳᠦᠰᠦᠲᠡᠨ ᠦ ᠰᠤᠷᠭᠠᠯ ᠬᠦᠮᠦᠵᠢᠯ ᠢ ᠳᠡᠭᠡᠭᠰᠢᠯᠡᠭᠦᠯᠬᠦ ᠳᠦ ᠴᠢᠬᠤᠯᠠ ᠠᠴᠠ ᠤᠯᠤᠰ ᠲᠥᠷᠦ ᠶᠢᠨ ᠪᠣᠳᠯᠣᠭ᠎ᠠ ᠶᠢ ᠬᠡᠷᠡᠭᠵᠢᠭᠦᠯᠬᠦ ᠃ ᠮᠣᠩᠭᠣᠯ ᠦᠨᠳᠦᠰᠦᠲᠡᠨ ᠦ ᠦᠯᠡᠮᠵᠢ ᠰᠣᠶᠣᠯ ᠢ ᠬᠠᠮᠠᠭᠠᠯᠠᠨ ᠬᠥᠭᠵᠢᠭᠦᠯᠬᠦ ᠶᠢᠨ ᠲᠥᠯᠦᠭᠡ ᠶᠡᠬᠡ ᠠᠵᠢᠯ ᠢ ᠶᠠᠪᠤᠭᠤᠯᠵᠤ ᠪᠠᠶᠢᠨ᠎ᠠ ᠃ ᠡᠨᠡ ᠨᠢ ᠦᠨᠳᠦᠰᠦᠲᠡᠨ ᠦ ᠰᠤᠷᠭᠠᠯ ᠬᠦᠮᠦᠵᠢᠯ ᠢ ᠳᠡᠭᠡᠭᠰᠢᠯᠡᠭᠦᠯᠬᠦ ᠳᠦ ᠴᠢᠬᠤᠯᠠ ᠠᠴᠠ ᠤᠯᠤᠰ ᠲᠥᠷᠦ ᠶᠢᠨ ᠪᠣᠳᠯᠣᠭ᠎ᠠ ᠶᠢ ᠬᠡᠷᠡᠭᠵᠢᠭᠦᠯᠬᠦ ᠃ ᠮᠣᠩᠭᠣᠯ ᠦᠨᠳᠦᠰᠦᠲᠡᠨ ᠦ ᠦᠯᠡᠮᠵᠢ ᠰᠣᠶᠣᠯ ᠢ ᠬᠠᠮᠠᠭᠠᠯᠠᠨ ᠬᠥᠭᠵᠢᠭᠦᠯᠬᠦ ᠶᠢᠨ ᠲᠥᠯᠦᠭᠡ ᠶᠡᠬᠡ ᠠᠵᠢᠯ ᠢ ᠶᠠᠪᠤᠭᠤᠯᠵᠤ ᠪᠠᠶᠢᠨ᠎ᠠ ᠃ ᠡᠨᠡ ᠨᠢ ᠦᠨᠳᠦᠰᠦᠲᠡᠨ ᠦ ᠰᠤᠷᠭᠠᠯ ᠬᠦᠮᠦᠵᠢᠯ ᠢ ᠳᠡᠭᠡᠭᠰᠢᠯᠡᠭᠦᠯᠬᠦ ᠳᠦ ᠴᠢᠬᠤᠯᠠ ᠠᠴᠠ ᠤᠯᠤᠰ ᠲᠥᠷᠦ ᠶᠢᠨ ᠪᠣᠳᠯᠣᠭ᠎ᠠ ᠶᠢ ᠬᠡᠷᠡᠭᠵᠢᠭᠦᠯᠬᠦ ᠃ ᠮᠣᠩᠭᠣᠯ ᠦᠨᠳᠦᠰᠦᠲᠡᠨ ᠦ ᠦᠯᠡᠮᠵᠢ ᠰᠣᠶᠣᠯ ᠢ ᠬᠠᠮᠠᠭᠠᠯᠠᠨ ᠬᠥᠭᠵᠢᠭᠦᠯᠬᠦ ᠶᠢᠨ ᠲᠥᠯᠦᠭᠡ ᠶᠡᠬᠡ ᠠᠵᠢᠯ ᠢ ᠶᠠᠪᠤᠭᠤᠯᠵᠤ ᠪᠠᠶᠢᠨ᠎ᠠ ᠃ ᠡᠨᠡ ᠨᠢ ᠦᠨᠳᠦᠰᠦᠲᠡᠨ ᠦ ᠰᠤᠷᠭᠠᠯ ᠬᠦᠮᠦᠵᠢᠯ ᠢ ᠳᠡᠭᠡᠭᠰᠢᠯᠡᠭᠦᠯᠬᠦ ᠳᠦ ᠴᠢᠬᠤᠯᠠ ᠠᠴᠠ ᠤᠯᠤᠰ ᠲᠥᠷᠦ ᠶᠢᠨ ᠪᠣᠳᠯᠣᠭ᠎ᠠ ᠶᠢ ᠬᠡᠷᠡᠭᠵᠢᠭᠦᠯᠬᠦ ᠃ ᠮᠣᠩᠭᠣᠯ ᠦᠨᠳᠦᠰᠦᠲᠡᠨ ᠦ ᠦᠯᠡᠮᠵᠢ ᠰᠣᠶᠣᠯ ᠢ ᠬᠠᠮᠠᠭᠠᠯᠠᠨ ᠬᠥᠭᠵᠢᠭᠦᠯᠬᠦ ᠶᠢᠨ ᠲᠥᠯᠦᠭᠡ ᠶᠡᠬᠡ ᠠᠵᠢᠯ ᠢ ᠶᠠᠪᠤᠭᠤᠯᠵᠤ ᠪᠠᠶᠢᠨ᠎ᠠ ᠃ ᠡᠨᠡ ᠨᠢ ᠦᠨᠳᠦᠰᠦᠲᠡᠨ ᠦ ᠰᠤᠷᠭᠠᠯ ᠬᠦᠮᠦᠵᠢᠯ ᠢ ᠳᠡᠭᠡᠭᠰᠢᠯᠡᠭᠦᠯᠬᠦ ᠳᠦ ᠴᠢᠬᠤᠯᠠ ᠠᠴᠠ ᠤᠯᠤᠰ ᠲᠥᠷᠦ ᠶᠢᠨ ᠪᠣᠳᠯᠣᠭ᠎ᠠ ᠶᠢ ᠬᠡᠷᠡᠭᠵᠢᠭᠦᠯᠬᠦ ᠃ ᠮᠣᠩᠭᠣᠯ ᠦᠨᠳᠦᠰᠦᠲᠡᠨ ᠦ ᠦᠯᠡᠮᠵᠢ ᠰᠣᠶᠣᠯ ᠢ ᠬᠠᠮᠠᠭᠠᠯᠠᠨ ᠬᠥᠭᠵᠢᠭᠦᠯᠬᠦ ᠶᠢᠨ ᠲᠥᠯᠦᠭᠡ ᠶᠡᠬᠡ ᠠᠵᠢᠯ ᠢ ᠶᠠᠪᠤᠭᠤᠯᠵᠤ ᠪᠠᠶᠢᠨ᠎ᠠ ᠃ ᠡᠨᠡ ᠨᠢ ᠦᠨᠳᠦᠰᠦᠲᠡᠨ ᠦ ᠰᠤᠷᠭᠠᠯ ᠬᠦᠮᠦᠵᠢᠯ ᠢ ᠳᠡᠭᠡᠭᠰᠢᠯᠡᠭᠦᠯᠬᠦ ᠳᠦ ᠴᠢᠬᠤᠯᠠ ᠠᠴᠠ ᠤᠯᠤᠰ ᠲᠥᠷᠦ ᠶᠢᠨ ᠪᠣᠳᠯᠣᠭ᠎ᠠ ᠶᠢ ᠬᠡᠷᠡᠭᠵᠢᠭᠦᠯᠬᠦ ᠃ ᠮᠣᠩᠭᠣᠯ ᠦᠨᠳᠦᠰᠦᠲᠡᠨ ᠦ ᠦᠯᠡᠮᠵᠢ ᠰᠣᠶᠣᠯ ᠢ ᠬᠠᠮᠠᠭᠠᠯᠠᠨ ᠬᠥᠭᠵᠢᠭᠦᠯᠬᠦ ᠶᠢᠨ ᠲᠥᠯᠦᠭᠡ ᠶᠡᠬᠡ ᠠᠵᠢᠯ ᠢ ᠶᠠᠪᠤᠭᠤᠯᠵᠤ ᠪᠠᠶᠢᠨ᠎ᠠ ᠃ ᠡᠨᠡ ᠨᠢ ᠦᠨᠳᠦᠰᠦᠲᠡᠨ ᠦ ᠰᠤᠷᠭᠠᠯ ᠬᠦᠮᠦᠵᠢᠯ ᠢ ᠳᠡᠭᠡᠭᠰᠢᠯᠡᠭᠦᠯᠬᠦ ᠳᠦ ᠴᠢᠬᠤᠯᠠ ᠠᠴᠠ ᠤᠯᠤᠰ ᠲᠥᠷᠦ ᠶᠢᠨ ᠪᠣᠳᠯᠣᠭ᠎ᠠ ᠶᠢ ᠬᠡᠷᠡᠭᠵᠢᠭᠦᠯᠬᠦ ᠃ ᠮᠣᠩᠭᠣᠯ ᠦᠨᠳᠦᠰᠦᠲᠡᠨ ᠦ ᠦᠯᠡᠮᠵᠢ ᠰᠣᠶᠣᠯ ᠢ ᠬᠠᠮᠠᠭᠠᠯᠠᠨ ᠬᠥᠭᠵᠢᠭᠦᠯᠬᠦ ᠶᠢᠨ ᠲᠥᠯᠦᠭᠡ ᠶᠡᠬᠡ ᠠᠵᠢᠯ ᠢ ᠶᠠᠪᠤᠭᠤᠯᠵᠤ ᠪᠠᠶᠢᠨ᠎ᠠ ᠃ ᠡᠨᠡ ᠨᠢ ᠦᠨᠳᠦᠰᠦᠲᠡᠨ ᠦ ᠰᠤᠷᠭᠠᠯ ᠬᠦᠮᠦᠵᠢᠯ ᠢ ᠳᠡᠭᠡᠭᠰᠢᠯᠡᠭᠦᠯᠬᠦ ᠳᠦ ᠴᠢᠬᠤᠯᠠ ᠠᠴᠠ ᠤᠯᠤᠰ ᠲᠥᠷᠦ ᠶᠢᠨ ᠪᠣᠳᠯᠣᠭ᠎ᠠ ᠶᠢ ᠬᠡᠷᠡᠭᠵᠢᠭᠦᠯᠬᠦ ᠃ ᠮᠣᠩᠭᠣᠯ ᠦᠨᠳᠦᠰᠦᠲᠡᠨ ᠦ ᠦᠯᠡᠮᠵᠢ ᠰᠣᠶᠣᠯ ᠢ ᠬᠠᠮᠠᠭᠠᠯᠠᠨ ᠬᠥᠭᠵᠢᠭᠦᠯᠬᠦ ᠶᠢᠨ ᠲᠥᠯᠦᠭᠡ ᠶᠡᠬᠡ ᠠᠵᠢᠯ ᠢ ᠶᠠᠪᠤᠭᠤᠯᠵᠤ ᠪᠠᠶᠢᠨ᠎ᠠ ᠃ ᠡᠨᠡ ᠨᠢ ᠦᠨᠳᠦᠰᠦᠲᠡᠨ ᠦ ᠰᠤᠷᠭᠠᠯ ᠬᠦᠮᠦᠵᠢᠯ ᠢ ᠳᠡᠭᠡᠭᠰᠢᠯᠡᠭᠦᠯᠬᠦ ᠳᠦ ᠴᠢᠬᠤᠯᠠ ᠠᠴᠠ ᠤᠯᠤᠰ ᠲᠥᠷᠦ ᠶᠢᠨ ᠪᠣᠳᠯᠣᠭ᠎ᠠ ᠶᠢ ᠬᠡᠷᠡᠭᠵᠢᠭᠦᠯᠬᠦ ᠃ ᠮᠣᠩᠭᠣᠯ ᠦᠨᠳᠦᠰᠦᠲᠡᠨ ᠦ ᠦᠯᠡᠮᠵᠢ ᠰᠣᠶᠣᠯ ᠢ ᠬᠠᠮᠠᠭᠠᠯᠠᠨ ᠬᠥᠭᠵᠢᠭᠦᠯᠬᠦ ᠶᠢᠨ ᠲᠥᠯᠦᠭᠡ ᠶᠡᠬᠡ ᠠᠵᠢᠯ ᠢ ᠶᠠᠪᠤᠭᠤᠯᠵᠤ ᠪᠠᠶᠢᠨ᠎ᠠ ᠃ ᠡᠨᠡ ᠨᠢ ᠦᠨᠳᠦᠰᠦᠲᠡᠨ ᠦ ᠰᠤᠷᠭᠠᠯ ᠬᠦᠮᠦᠵᠢᠯ ᠢ ᠳᠡᠭᠡᠭᠰᠢᠯᠡᠭᠦᠯᠬᠦ ᠳᠦ ᠴᠢᠬᠤᠯᠠ ᠠᠴᠠ ᠤᠯᠤᠰ ᠲᠥᠷᠦ ᠶᠢᠨ ᠪᠣᠳᠯᠣᠭ᠎ᠠ ᠶᠢ ᠬᠡᠷᠡᠭᠵᠢᠭᠦᠯᠬᠦ ᠃ ᠮᠣᠩᠭᠣᠯ ᠦᠨᠳᠦᠰᠦᠲᠡᠨ ᠦ ᠦᠯᠡᠮᠵᠢ ᠰᠣᠶᠣᠯ ᠢ ᠬᠠᠮᠠᠭᠠᠯᠠᠨ ᠬᠥᠭᠵᠢᠭᠦᠯᠬᠦ ᠶᠢᠨ ᠲᠥᠯᠦᠭᠡ ᠶᠡᠬᠡ ᠠᠵᠢᠯ ᠢ ᠶᠠᠪᠤᠭᠤᠯᠵᠤ ᠪᠠᠶᠢᠨ᠎ᠠ ᠃ ᠡᠨᠡ ᠨᠢ ᠦᠨᠳᠦᠰᠦᠲᠡᠨ ᠦ ᠰᠤᠷᠭᠠᠯ ᠬᠦᠮᠦᠵᠢᠯ ᠢ ᠳᠡᠭᠡᠭᠰᠢᠯᠡᠭᠦᠯᠬᠦ ᠳᠦ ᠴᠢᠬᠤᠯᠠ ᠠᠴᠠ ᠤᠯᠤᠰ ᠲᠥᠷᠦ ᠶᠢᠨ ᠪᠣᠳᠯᠣᠭ᠎ᠠ ᠶᠢ ᠬᠡᠷᠡᠭᠵᠢᠭᠦᠯᠬᠦ ᠃ ᠮᠣᠩᠭᠣᠯ ᠦᠨᠳᠦᠰᠦᠲᠡᠨ ᠦ ᠦᠯᠡᠮᠵᠢ ᠰᠣᠶᠣᠯ ᠢ ᠬᠠᠮᠠᠭᠠᠯᠠᠨ ᠬᠥᠭᠵᠢᠭᠦᠯᠬᠦ ᠶᠢᠨ ᠲᠥᠯᠦᠭᠡ ᠶᠡᠬᠡ ᠠᠵᠢᠯ ᠢ ᠶᠠᠪᠤᠭᠤᠯᠵᠤ ᠪᠠᠶᠢᠨ᠎ᠠ ᠃ ᠡᠨᠡ ᠨᠢ ᠦᠨᠳᠦᠰᠦᠲᠡᠨ ᠦ ᠰᠤᠷᠭᠠᠯ ᠬᠦᠮᠦᠵᠢᠯ ᠢ ᠳᠡᠭᠡᠭᠰᠢᠯᠡᠭᠦᠯᠬᠦ ᠳᠦ ᠴᠢᠬᠤᠯᠠ ᠠᠴᠠ ᠤᠯᠤᠰ ᠲᠥᠷᠦ ᠶᠢᠨ ᠪᠣᠳᠯᠣᠭ᠎ᠠ ᠶᠢ ᠬᠡᠷᠡᠭᠵᠢᠭᠦᠯᠬᠦ ᠃ ᠮᠣᠩᠭᠣᠯ ᠦᠨᠳᠦᠰᠦᠲᠡᠨ ᠦ ᠦᠯᠡᠮᠵᠢ ᠰᠣᠶᠣᠯ ᠢ ᠬᠠᠮᠠᠭᠠᠯᠠᠨ ᠬᠥᠭᠵᠢᠭᠦᠯᠬᠦ ᠶᠢᠨ ᠲᠥᠯᠦᠭᠡ ᠶᠡᠬᠡ ᠠᠵᠢᠯ ᠢ ᠶᠠᠪᠤᠭᠤᠯᠵᠤ ᠪᠠᠶᠢᠨ᠎ᠠ ᠃ ᠡᠨᠡ ᠨᠢ ᠦᠨᠳᠦᠰᠦᠲᠡᠨ ᠦ ᠰᠤᠷᠭᠠᠯ ᠬᠦᠮᠦᠵᠢᠯ ᠢ ᠳᠡᠭᠡᠭᠰᠢᠯᠡᠭᠦᠯᠬᠦ ᠳᠦ ᠴᠢᠬᠤᠯᠠ ᠠᠴᠠ ᠤᠯᠤᠰ ᠲᠥᠷᠦ ᠶᠢᠨ ᠪᠣᠳᠯᠣᠭ᠎ᠠ ᠶᠢ ᠬᠡᠷᠡᠭᠵᠢᠭᠦᠯᠬᠦ ᠃ ᠮᠣᠩᠭᠣᠯ ᠦᠨᠳᠦᠰᠦᠲᠡᠨ ᠦ ᠦᠯᠡᠮᠵᠢ ᠰᠣᠶᠣᠯ ᠢ ᠬᠠᠮᠠᠭᠠᠯᠠᠨ ᠬᠥᠭᠵᠢᠭᠦᠯᠬᠦ ᠶᠢᠨ ᠲᠥᠯᠦᠭᠡ ᠶᠡᠬᠡ ᠠᠵᠢᠯ ᠢ ᠶᠠᠪᠤᠭᠤᠯᠵᠤ ᠪᠠᠶᠢᠨ᠎ᠠ ᠃ ᠡᠨᠡ ᠨᠢ ᠦᠨᠳᠦᠰᠦᠲᠡᠨ ᠦ ᠰᠤᠷᠭᠠᠯ ᠬᠦᠮᠦᠵᠢᠯ ᠢ ᠳᠡᠭᠡᠭᠰᠢᠯᠡᠭᠦᠯᠬᠦ ᠳᠦ ᠴᠢᠬᠤᠯᠠ ᠠᠴᠠ ᠤᠯᠤᠰ ᠲᠥᠷᠦ ᠶᠢᠨ ᠪᠣᠳᠯᠣᠭ᠎ᠠ ᠶᠢ ᠬᠡᠷᠡᠭᠵᠢᠭᠦᠯᠬᠦ ᠃ ᠮᠣᠩᠭᠣᠯ ᠦᠨᠳᠦᠰᠦᠲᠡᠨ ᠦ ᠦᠯᠡᠮᠵᠢ ᠰᠣᠶᠣᠯ ᠢ ᠬᠠᠮᠠᠭᠠᠯᠠᠨ ᠬᠥᠭᠵᠢᠭᠦᠯᠬᠦ ᠶᠢᠨ ᠲᠥᠯᠦᠭᠡ ᠶᠡᠬᠡ ᠠᠵᠢᠯ ᠢ ᠶᠠᠪᠤᠭᠤᠯᠵᠤ ᠪᠠᠶᠢᠨ᠎ᠠ ᠃ ᠡᠨᠡ ᠨᠢ ᠦᠨᠳᠦᠰᠦᠲᠡᠨ ᠦ ᠰᠤᠷᠭᠠᠯ ᠬᠦᠮᠦᠵᠢᠯ ᠢ ᠳᠡᠭᠡᠭᠰᠢᠯᠡᠭᠦᠯᠬᠦ ᠳᠦ ᠴᠢᠬᠤᠯᠠ ᠠᠴᠠ ᠤᠯᠤᠰ ᠲᠥᠷᠦ ᠶᠢᠨ ᠪᠣᠳᠯᠣᠭ᠎ᠠ ᠶᠢ ᠬᠡᠷᠡᠭᠵᠢᠭᠦᠯᠬᠦ ᠃ ᠮᠣᠩᠭᠣᠯ ᠦᠨᠳᠦᠰᠦᠲᠡᠨ ᠦ ᠦᠯᠡᠮᠵᠢ ᠰᠣᠶᠣᠯ ᠢ ᠬᠠᠮᠠᠭᠠᠯᠠᠨ ᠬᠥᠭᠵᠢᠭᠦᠯᠬᠦ ᠶᠢᠨ ᠲᠥᠯᠦᠭᠡ ᠶᠡᠬᠡ ᠠᠵᠢᠯ ᠢ ᠶᠠᠪᠤᠭᠤᠯᠵᠤ ᠪᠠᠶᠢᠨ᠎ᠠ ᠃ ᠡᠨᠡ ᠨᠢ ᠦᠨᠳᠦᠰᠦᠲᠡᠨ ᠦ ᠰᠤᠷᠭᠠᠯ ᠬᠦᠮᠦᠵᠢᠯ ᠢ ᠳᠡᠭᠡᠭᠰᠢᠯᠡᠭᠦᠯᠬᠦ ᠳᠦ ᠴᠢᠬᠤᠯᠠ ᠠᠴᠠ ᠤᠯᠤᠰ ᠲᠥᠷᠦ ᠶᠢᠨ ᠪᠣᠳᠯᠣᠭ᠎ᠠ ᠶᠢ ᠬᠡᠷᠡᠭᠵᠢᠭᠦᠯᠬᠦ ᠃ ᠮᠣᠩᠭᠣᠯ ᠦᠨᠳᠦᠰᠦᠲᠡᠨ ᠦ ᠦᠯᠡᠮᠵᠢ ᠰᠣᠶᠣᠯ ᠢ ᠬᠠᠮᠠᠭᠠᠯᠠᠨ ᠬᠥᠭᠵᠢᠭᠦᠯᠬᠦ ᠶᠢᠨ ᠲᠥᠯᠦᠭᠡ ᠶᠡᠬᠡ ᠠᠵᠢᠯ ᠢ ᠶᠠᠪᠤᠭᠤᠯᠵᠤ ᠪᠠᠶᠢᠨ᠎ᠠ ᠃ ᠡᠨᠡ ᠨᠢ ᠦᠨᠳᠦᠰᠦᠲᠡᠨ ᠦ ᠰᠤᠷᠭᠠᠯ ᠬᠦᠮᠦᠵᠢᠯ ᠢ ᠳᠡᠭᠡᠭᠰᠢᠯᠡᠭᠦᠯᠬᠦ ᠳᠦ ᠴᠢᠬᠤᠯᠠ ᠠᠴᠠ ᠤᠯᠤᠰ ᠲᠥᠷᠦ ᠶᠢᠨ ᠪᠣᠳᠯᠣᠭ᠎ᠠ ᠶᠢ ᠬᠡᠷᠡᠭᠵᠢᠭᠦᠯᠬᠦ ᠃ ᠮᠣᠩᠭᠣᠯ ᠦᠨᠳᠦᠰᠦᠲᠡᠨ ᠦ ᠦᠯᠡᠮᠵᠢ ᠰᠣᠶᠣᠯ ᠢ ᠬᠠᠮᠠᠭᠠᠯᠠᠨ ᠬᠥᠭᠵᠢᠭᠦᠯᠬᠦ ᠶᠢᠨ ᠲᠥᠯᠦᠭᠡ ᠶᠡᠬᠡ ᠠᠵᠢᠯ ᠢ ᠶᠠᠪᠤᠭᠤᠯᠵᠤ ᠪᠠᠶᠢᠨ᠎ᠠ ᠃ ᠡᠨᠡ ᠨᠢ ᠦᠨᠳᠦᠰᠦᠲᠡᠨ ᠦ ᠰᠤᠷᠭᠠᠯ ᠬᠦᠮᠦᠵᠢᠯ ᠢ ᠳᠡᠭᠡᠭᠰᠢᠯᠡᠭᠦᠯᠬᠦ ᠳᠦ ᠴᠢᠬᠤᠯᠠ ᠠᠴᠠ ᠤᠯᠤᠰ ᠲᠥᠷᠦ ᠶᠢᠨ ᠪᠣᠳᠯᠣᠭ᠎ᠠ ᠶᠢ ᠬᠡᠷᠡᠭᠵᠢᠭᠦᠯᠬᠦ ᠃ ᠮᠣᠩᠭᠣᠯ ᠦᠨᠳᠦᠰᠦᠲᠡᠨ ᠦ ᠦᠯᠡᠮᠵᠢ ᠰᠣᠶᠣᠯ ᠢ ᠬᠠᠮᠠᠭᠠᠯᠠᠨ ᠬᠥᠭᠵᠢᠭᠦᠯᠬᠦ ᠶᠢᠨ ᠲᠥᠯᠦᠭᠡ ᠶᠡᠬᠡ ᠠᠵᠢᠯ ᠢ ᠶᠠᠪᠤᠭᠤᠯᠵᠤ ᠪᠠᠶᠢᠨ᠎ᠠ ᠃ ᠡᠨᠡ ᠨᠢ ᠦᠨᠳᠦᠰᠦᠲᠡᠨ ᠦ ᠰᠤᠷᠭᠠᠯ ᠬᠦᠮᠦᠵᠢᠯ ᠢ ᠳᠡᠭᠡᠭᠰᠢᠯᠡᠭᠦᠯᠬᠦ ᠳᠦ ᠴᠢᠬᠤᠯᠠ ᠠᠴᠠ ᠤᠯᠤᠰ ᠲᠥᠷᠦ ᠶᠢᠨ ᠪᠣᠳᠯᠣᠭ᠎ᠠ ᠶᠢ ᠬᠡᠷᠡᠭᠵᠢᠭᠦᠯᠬᠦ ᠃ ᠮᠣᠩᠭᠣᠯ ᠦᠨᠳᠦᠰᠦᠲᠡᠨ ᠦ ᠦᠯᠡᠮᠵᠢ ᠰᠣᠶᠣᠯ ᠢ ᠬᠠᠮᠠᠭᠠᠯᠠᠨ ᠬᠥᠭᠵᠢᠭᠦᠯᠬᠦ ᠶᠢᠨ ᠲᠥᠯᠦᠭᠡ ᠶᠡᠬᠡ ᠠᠵᠢᠯ ᠢ ᠶᠠᠪᠤᠭᠤᠯᠵᠤ ᠪᠠᠶᠢᠨ᠎ᠠ ᠃ ᠡᠨᠡ ᠨᠢ ᠦᠨᠳᠦᠰᠦᠲᠡᠨ ᠦ ᠰᠤᠷᠭᠠᠯ ᠬᠦᠮᠦᠵᠢᠯ ᠢ ᠳᠡᠭᠡᠭᠰᠢᠯᠡᠭᠦᠯᠬᠦ ᠳᠦ ᠴᠢᠬᠤᠯᠠ ᠠᠴᠠ ᠤᠯᠤᠰ ᠲᠥᠷᠦ ᠶᠢᠨ ᠪᠣᠳᠯᠣᠭ᠎ᠠ ᠶᠢ ᠬᠡᠷᠡᠭᠵᠢᠭᠦᠯᠬᠦ ᠃ ᠮᠣᠩᠭᠣᠯ ᠦᠨᠳᠦᠰᠦᠲᠡᠨ ᠦ ᠦᠯᠡᠮᠵᠢ ᠰᠣᠶᠣᠯ ᠢ ᠬᠠᠮᠠᠭᠠᠯᠠᠨ ᠬᠥᠭᠵᠢᠭᠦᠯᠬᠦ ᠶᠢᠨ ᠲᠥᠯᠦᠭᠡ ᠶᠡᠬᠡ ᠠᠵᠢᠯ ᠢ ᠶᠠᠪᠤᠭᠤᠯᠵᠤ ᠪᠠᠶᠢᠨ᠎ᠠ ᠃ ᠡᠨᠡ ᠨᠢ ᠦᠨᠳᠦᠰᠦᠲᠡᠨ ᠦ ᠰᠤᠷᠭᠠᠯ ᠬᠦᠮᠦᠵᠢᠯ ᠢ ᠳᠡᠭᠡᠭᠰᠢᠯᠡᠭᠦᠯᠬᠦ ᠳᠦ ᠴᠢᠬᠤᠯᠠ ᠠᠴᠠ ᠤᠯᠤᠰ ᠲᠥᠷᠦ ᠶᠢᠨ ᠪᠣᠳᠯᠣᠭ᠎ᠠ ᠶᠢ ᠬᠡᠷᠡᠭᠵᠢᠭᠦᠯᠬᠦ ᠃ ᠮᠣᠩᠭᠣᠯ ᠦᠨᠳᠦᠰᠦᠲᠡᠨ ᠦ ᠦᠯᠡᠮᠵᠢ ᠰᠣᠶᠣᠯ ᠢ ᠬᠠᠮᠠᠭᠠᠯᠠᠨ ᠬᠥᠭᠵᠢᠭᠦᠯᠬᠦ ᠶᠢᠨ ᠲᠥᠯᠦᠭᠡ ᠶᠡᠬᠡ ᠠᠵᠢᠯ ᠢ ᠶᠠᠪᠤᠭᠤᠯᠵᠤ ᠪᠠᠶᠢᠨ᠎ᠠ ᠃ ᠡᠨᠡ ᠨᠢ ᠦᠨᠳᠦᠰᠦᠲᠡᠨ ᠦ ᠰᠤᠷᠭᠠᠯ ᠬᠦᠮᠦᠵᠢᠯ ᠢ ᠳᠡᠭᠡᠭᠰᠢᠯᠡᠭᠦᠯᠬᠦ ᠳᠦ ᠴᠢᠬᠤᠯᠠ ᠠᠴᠠ ᠤᠯᠤᠰ ᠲᠥᠷᠦ ᠶᠢᠨ ᠪᠣᠳᠯᠣᠭ᠎ᠠ ᠶᠢ ᠬᠡᠷᠡᠭᠵᠢᠭᠦᠯᠬᠦ ᠃ ᠮᠣᠩᠭᠣᠯ ᠦᠨᠳᠦᠰᠦᠲᠡᠨ ᠦ ᠦᠯᠡᠮᠵᠢ ᠰᠣᠶᠣᠯ ᠢ ᠬᠠᠮᠠᠭᠠᠯᠠᠨ ᠬᠥᠭᠵᠢᠭᠦᠯᠬᠦ ᠶᠢᠨ ᠲᠥᠯᠦᠭᠡ ᠶᠡᠬᠡ ᠠᠵᠢᠯ ᠢ ᠶᠠᠪᠤᠭᠤᠯᠵᠤ ᠪᠠᠶᠢᠨ᠎ᠠ ᠃ ᠡᠨᠡ ᠨᠢ ᠦᠨᠳᠦᠰᠦᠲᠡᠨ ᠦ ᠰᠤᠷᠭᠠᠯ ᠬᠦᠮᠦᠵᠢᠯ ᠢ ᠳᠡᠭᠡᠭᠰᠢᠯᠡᠭᠦᠯᠬᠦ ᠳᠦ ᠴᠢᠬᠤᠯᠠ ᠠᠴᠠ ᠤᠯᠤᠰ ᠲᠥᠷᠦ ᠶᠢᠨ ᠪᠣᠳᠯᠣᠭ᠎ᠠ ᠶᠢ ᠬᠡᠷᠡᠭᠵᠢᠭᠦᠯᠬᠦ ᠃ ᠮᠣᠩᠭᠣᠯ ᠦᠨᠳᠦᠰᠦᠲᠡᠨ ᠦ ᠦᠯᠡᠮᠵᠢ ᠰᠣᠶᠣᠯ ᠢ ᠬᠠᠮᠠᠭᠠᠯᠠᠨ ᠬᠥᠭᠵᠢᠭᠦᠯᠬᠦ ᠶᠢᠨ ᠲᠥᠯᠦᠭᠡ ᠶᠡᠬᠡ ᠠᠵᠢᠯ ᠢ ᠶᠠᠪᠤᠭᠤᠯᠵᠤ ᠪᠠᠶᠢᠨ᠎ᠠ ᠃ ᠡᠨᠡ ᠨᠢ ᠦᠨᠳᠦᠰᠦᠲᠡᠨ ᠦ ᠰᠤᠷᠭᠠᠯ ᠬᠦᠮᠦᠵᠢᠯ ᠢ ᠳᠡᠭᠡᠭᠰᠢᠯᠡᠭᠦᠯᠬᠦ ᠳᠦ ᠴᠢᠬᠤᠯᠠ ᠠᠴᠠ ᠤᠯᠤᠰ ᠲᠥᠷᠦ ᠶᠢᠨ ᠪᠣᠳᠯᠣᠭ᠎ᠠ ᠶᠢ ᠬᠡᠷᠡᠭᠵᠢᠭᠦᠯᠬᠦ ᠃ ᠮᠣᠩᠭᠣᠯ ᠦᠨᠳᠦᠰᠦᠲᠡᠨ ᠦ ᠦᠯᠡᠮᠵᠢ ᠰᠣᠶᠣᠯ ᠢ ᠬᠠᠮᠠᠭᠠᠯᠠᠨ ᠬᠥᠭᠵᠢᠭᠦᠯᠬᠦ ᠶᠢᠨ ᠲᠥᠯᠦᠭᠡ ᠶᠡᠬᠡ ᠠᠵᠢᠯ ᠢ ᠶᠠᠪᠤᠭᠤᠯᠵᠤ ᠪᠠᠶᠢᠨ᠎ᠠ ᠃ ᠡᠨᠡ ᠨᠢ ᠦᠨᠳᠦᠰᠦᠲᠡᠨ ᠦ ᠰᠤᠷᠭᠠᠯ ᠬᠦᠮᠦᠵᠢᠯ ᠢ ᠳᠡᠭᠡᠭᠰᠢᠯᠡᠭᠦᠯᠬᠦ ᠳᠦ ᠴᠢᠬᠤᠯᠠ ᠠᠴᠠ ᠤᠯᠤᠰ ᠲᠥᠷᠦ ᠶᠢᠨ ᠪᠣᠳᠯᠣᠭ᠎ᠠ ᠶᠢ ᠬᠡᠷᠡᠭᠵᠢᠭᠦᠯᠬᠦ ᠃ ᠮᠣᠩᠭᠣᠯ ᠦᠨᠳᠦᠰᠦᠲᠡᠨ ᠦ ᠦᠯᠡᠮᠵᠢ ᠰᠣᠶᠣᠯ ᠢ ᠬᠠᠮᠠᠭᠠᠯᠠᠨ ᠬᠥᠭᠵᠢᠭᠦᠯᠬᠦ ᠶᠢᠨ ᠲᠥᠯᠦᠭᠡ ᠶᠡᠬᠡ ᠠᠵᠢᠯ ᠢ ᠶᠠᠪᠤᠭᠤᠯᠵᠤ ᠪᠠᠶᠢᠨ᠎ᠠ ᠃ ᠡᠨᠡ ᠨᠢ ᠦᠨᠳᠦᠰᠦᠲᠡᠨ ᠦ ᠰᠤᠷᠭᠠᠯ ᠬᠦᠮᠦᠵᠢᠯ ᠢ ᠳᠡᠭᠡᠭᠰᠢᠯᠡᠭᠦᠯᠬᠦ ᠳᠦ ᠴᠢᠬᠤᠯᠠ ᠠᠴᠠ ᠤᠯᠤᠰ ᠲᠥᠷᠦ ᠶᠢᠨ ᠪᠣᠳᠯᠣᠭ᠎ᠠ ᠶᠢ ᠬᠡᠷᠡᠭᠵᠢᠭᠦᠯᠬᠦ ᠃ ᠮᠣᠩᠭᠣᠯ ᠦᠨᠳᠦᠰᠦᠲᠡᠨ ᠦ ᠦᠯᠡᠮᠵᠢ ᠰᠣᠶᠣᠯ ᠢ ᠬᠠᠮᠠᠭᠠᠯᠠᠨ ᠬᠥᠭᠵᠢᠭᠦᠯᠬᠦ ᠶᠢᠨ ᠲᠥᠯᠦᠭᠡ ᠶᠡᠬᠡ ᠠᠵᠢᠯ ᠢ ᠶᠠᠪᠤᠭᠤᠯᠵᠤ ᠪᠠᠶᠢᠨ᠎ᠠ ᠃ ᠡᠨᠡ ᠨᠢ ᠦᠨᠳᠦᠰᠦᠲᠡᠨ ᠦ ᠰᠤᠷᠭᠠᠯ ᠬᠦᠮᠦᠵᠢᠯ ᠢ ᠳᠡᠭᠡᠭᠰᠢᠯᠡᠭᠦᠯᠬᠦ ᠳᠦ ᠴᠢᠬᠤᠯᠠ ᠠᠴᠠ ᠤᠯᠤᠰ ᠲᠥᠷᠦ ᠶᠢᠨ ᠪᠣᠳᠯᠣᠭ᠎ᠠ ᠶᠢ ᠬᠡᠷᠡᠭᠵᠢᠭᠦᠯᠬᠦ ᠃ ᠮᠣᠩᠭᠣᠯ ᠦᠨᠳᠦᠰᠦᠲᠡᠨ ᠦ ᠦᠯᠡᠮᠵᠢ ᠰᠣᠶᠣᠯ ᠢ ᠬᠠᠮᠠᠭᠠᠯᠠᠨ ᠬᠥᠭᠵᠢᠭᠦᠯᠬᠦ ᠶᠢᠨ ᠲᠥᠯᠦᠭᠡ ᠶᠡᠬᠡ ᠠᠵᠢᠯ ᠢ ᠶᠠᠪᠤᠭᠤᠯᠵᠤ ᠪᠠᠶᠢᠨ᠎ᠠ ᠃ ᠡᠨᠡ ᠨᠢ ᠦᠨᠳᠦᠰᠦᠲᠡᠨ ᠦ ᠰᠤᠷᠭᠠᠯ ᠬᠦᠮᠦᠵᠢᠯ ᠢ ᠳᠡᠭᠡᠭᠰᠢᠯᠡᠭᠦᠯᠬᠦ ᠳᠦ ᠴᠢᠬᠤᠯᠠ ᠠᠴᠠ ᠤᠯᠤᠰ ᠲᠥᠷᠦ ᠶᠢᠨ ᠪᠣᠳᠯᠣᠭ᠎ᠠ ᠶᠢ ᠬᠡᠷᠡᠭᠵᠢᠭᠦᠯᠬᠦ ᠃ ᠮᠣᠩᠭᠣᠯ ᠦᠨᠳᠦᠰᠦᠲᠡᠨ ᠦ ᠦᠯᠡᠮᠵᠢ ᠰᠣᠶᠣᠯ ᠢ ᠬᠠᠮᠠᠭᠠᠯᠠᠨ ᠬᠥᠭᠵᠢᠭᠦᠯᠬᠦ ᠶᠢᠨ ᠲᠥᠯᠦᠭᠡ ᠶᠡᠬᠡ ᠠᠵᠢᠯ ᠢ ᠶᠠᠪᠤᠭᠤᠯᠵᠤ ᠪᠠᠶᠢᠨ᠎ᠠ ᠃ ᠡᠨᠡ ᠨᠢ ᠦᠨᠳᠦᠰᠦᠲᠡᠨ ᠦ ᠰᠤᠷᠭᠠᠯ ᠬᠦᠮᠦᠵᠢᠯ ᠢ ᠳᠡᠭᠡᠭᠰᠢᠯᠡᠭᠦᠯᠬᠦ ᠳᠦ ᠴᠢᠬᠤᠯᠠ ᠠᠴᠠ ᠤᠯᠤᠰ ᠲᠥᠷᠦ ᠶᠢᠨ ᠪᠣᠳᠯᠣᠭ᠎ᠠ ᠶᠢ ᠬᠡᠷᠡᠭᠵᠢᠭᠦᠯᠬᠦ ᠃ ᠮᠣᠩᠭᠣᠯ ᠦᠨᠳᠦᠰᠦᠲᠡᠨ ᠦ ᠦᠯᠡᠮᠵᠢ ᠰᠣᠶᠣᠯ ᠢ ᠬᠠᠮᠠᠭᠠᠯᠠᠨ ᠬᠥᠭᠵᠢᠭᠦᠯᠬᠦ ᠶᠢᠨ ᠲᠥᠯᠦᠭᠡ ᠶᠡᠬᠡ ᠠᠵᠢᠯ ᠢ ᠶᠠᠪᠤᠭᠤᠯᠵᠤ ᠪᠠᠶᠢᠨ᠎ᠠ ᠃ ᠡᠨᠡ ᠨᠢ ᠦᠨᠳᠦᠰᠦᠲᠡᠨ ᠦ ᠰᠤᠷᠭᠠᠯ ᠬᠦᠮᠦᠵᠢᠯ ᠢ ᠳᠡᠭᠡᠭᠰᠢᠯᠡᠭᠦᠯᠬᠦ ᠳᠦ ᠴᠢᠬᠤᠯᠠ ᠠᠴᠠ ᠤᠯᠤᠰ ᠲᠥᠷᠦ ᠶᠢᠨ ᠪᠣᠳᠯᠣᠭ᠎ᠠ ᠶᠢ ᠬᠡᠷᠡᠭᠵᠢᠭᠦᠯᠬᠦ ᠃ ᠮᠣᠩᠭᠣᠯ ᠦᠨᠳᠦᠰᠦᠲᠡᠨ ᠦ ᠦᠯᠡᠮᠵᠢ ᠰᠣᠶᠣᠯ ᠢ ᠬᠠᠮᠠᠭᠠᠯᠠᠨ ᠬᠥᠭᠵᠢᠭᠦᠯᠬᠦ ᠶᠢᠨ ᠲᠥᠯᠦᠭᠡ ᠶᠡᠬᠡ ᠠᠵᠢᠯ ᠢ ᠶᠠᠪᠤᠭᠤᠯᠵᠤ ᠪᠠᠶᠢᠨ᠎ᠠ ᠃ ᠡᠨᠡ ᠨᠢ ᠦᠨᠳᠦᠰᠦᠲᠡᠨ ᠦ ᠰᠤᠷᠭᠠᠯ ᠬᠦᠮᠦᠵᠢᠯ ᠢ ᠳᠡᠭᠡᠭᠰᠢᠯᠡᠭᠦᠯᠬᠦ ᠳᠦ ᠴᠢᠬᠤᠯᠠ ᠠᠴᠠ ᠤᠯᠤᠰ ᠲᠥᠷᠦ ᠶᠢᠨ ᠪᠣᠳᠯᠣᠭ᠎ᠠ ᠶᠢ ᠬᠡᠷᠡᠭᠵᠢᠭᠦᠯᠬᠦ ᠃ ᠮᠣᠩᠭᠣᠯ ᠦᠨᠳᠦᠰᠦᠲᠡᠨ ᠦ ᠦᠯᠡᠮᠵᠢ ᠰᠣᠶᠣᠯ ᠢ ᠬᠠᠮᠠᠭᠠᠯᠠᠨ ᠬᠥᠭᠵᠢᠭᠦᠯᠬᠦ ᠶᠢᠨ ᠲᠥᠯᠦᠭᠡ ᠶᠡᠬᠡ ᠠᠵᠢᠯ ᠢ ᠶᠠᠪᠤᠭᠤᠯᠵᠤ ᠪᠠᠶᠢᠨ᠎ᠠ ᠃ ᠡᠨᠡ ᠨᠢ ᠦᠨᠳᠦᠰᠦᠲᠡᠨ ᠦ ᠰᠤᠷᠭᠠᠯ ᠬᠦᠮᠦᠵᠢᠯ ᠢ ᠳᠡᠭᠡᠭᠰᠢᠯᠡᠭᠦᠯᠬᠦ ᠳᠦ ᠴᠢᠬᠤᠯᠠ ᠠᠴᠠ ᠤᠯᠤᠰ ᠲᠥᠷᠦ ᠶᠢᠨ ᠪᠣᠳᠯᠣᠭ᠎ᠠ ᠶᠢ ᠬᠡᠷᠡᠭᠵᠢᠭᠦᠯᠬᠦ ᠃ ᠮᠣᠩᠭᠣᠯ ᠦᠨᠳᠦᠰᠦᠲᠡᠨ ᠦ ᠦᠯᠡᠮᠵᠢ ᠰᠣᠶᠣᠯ ᠢ ᠬᠠᠮᠠᠭᠠᠯᠠᠨ ᠬᠥᠭᠵᠢᠭᠦᠯᠬᠦ ᠶᠢᠨ ᠲᠥᠯᠦᠭᠡ ᠶᠡᠬᠡ ᠠᠵᠢᠯ ᠢ ᠶᠠᠪᠤᠭᠤᠯᠵᠤ ᠪᠠᠶᠢᠨ᠎ᠠ ᠃ ᠡᠨᠡ ᠨᠢ ᠦᠨᠳᠦᠰᠦᠲᠡᠨ ᠦ ᠰᠤᠷᠭᠠᠯ ᠬᠦᠮᠦᠵᠢᠯ ᠢ ᠳᠡᠭᠡᠭᠰᠢᠯᠡᠭᠦᠯᠬᠦ ᠳᠦ ᠴᠢᠬᠤᠯᠠ ᠠᠴᠠ ᠤᠯᠤᠰ ᠲᠥᠷᠦ ᠶᠢᠨ ᠪᠣᠳᠯᠣᠭ᠎ᠠ ᠶᠢ ᠬᠡᠷᠡᠭᠵᠢᠭᠦᠯᠬᠦ ᠃ ᠮᠣᠩᠭᠣᠯ ᠦᠨᠳᠦᠰᠦᠲᠡᠨ ᠦ ᠦᠯᠡᠮᠵᠢ ᠰᠣᠶᠣᠯ ᠢ ᠬᠠᠮᠠᠭᠠᠯᠠᠨ ᠬᠥᠭᠵᠢᠭᠦᠯᠬᠦ ᠶᠢᠨ ᠲᠥᠯᠦᠭᠡ ᠶᠡᠬᠡ ᠠᠵᠢᠯ ᠢ ᠶᠠᠪᠤᠭᠤᠯᠵᠤ ᠪᠠᠶᠢᠨ᠎ᠠ ᠃ ᠡᠨᠡ ᠨᠢ ᠦᠨᠳᠦᠰᠦᠲᠡᠨ ᠦ ᠰᠤᠷᠭᠠᠯ ᠬᠦᠮᠦᠵᠢᠯ ᠢ ᠳᠡᠭᠡᠭᠰᠢᠯᠡᠭᠦᠯᠬᠦ ᠳᠦ ᠴᠢᠬᠤᠯᠠ ᠠᠴᠠ ᠤᠯᠤᠰ ᠲᠥᠷᠦ ᠶᠢᠨ ᠪᠣᠳᠯᠣᠭ᠎ᠠ ᠶᠢ ᠬᠡᠷᠡᠭᠵᠢᠭᠦᠯᠬᠦ ᠃ ᠮᠣᠩᠭᠣᠯ ᠦᠨᠳᠦᠰᠦᠲᠡᠨ ᠦ ᠦᠯᠡᠮᠵᠢ ᠰᠣᠶᠣᠯ ᠢ ᠬᠠᠮᠠᠭᠠᠯᠠᠨ ᠬᠥᠭᠵᠢᠭᠦᠯᠬᠦ ᠶᠢᠨ ᠲᠥᠯᠦᠭᠡ ᠶᠡᠬᠡ ᠠᠵᠢᠯ ᠢ ᠶᠠᠪᠤᠭᠤᠯᠵᠤ ᠪᠠᠶᠢᠨ᠎ᠠ ᠃ ᠡᠨᠡ ᠨᠢ ᠦᠨᠳᠦᠰᠦᠲᠡᠨ ᠦ ᠰᠤᠷᠭᠠᠯ ᠬᠦᠮᠦᠵᠢᠯ ᠢ ᠳᠡᠭᠡᠭᠰᠢᠯᠡᠭᠦᠯᠬᠦ ᠳᠦ ᠴᠢᠬᠤᠯᠠ ᠠᠴᠠ ᠤᠯᠤᠰ ᠲᠥᠷᠦ ᠶᠢᠨ ᠪᠣᠳᠯᠣᠭ᠎ᠠ ᠶᠢ ᠬᠡᠷᠡᠭᠵᠢᠭᠦᠯᠬᠦ ᠃ ᠮᠣᠩᠭᠣᠯ ᠦᠨᠳᠦᠰᠦᠲᠡᠨ ᠦ ᠦᠯᠡᠮᠵᠢ ᠰᠣᠶᠣᠯ ᠢ ᠬᠠᠮᠠᠭᠠᠯᠠᠨ ᠬᠥᠭᠵᠢᠭᠦᠯᠬᠦ ᠶᠢᠨ ᠲᠥᠯᠦᠭᠡ ᠶᠡᠬᠡ ᠠᠵᠢᠯ ᠢ ᠶᠠᠪᠤᠭᠤᠯᠵᠤ ᠪᠠᠶᠢᠨ᠎ᠠ ᠃ ᠡᠨᠡ ᠨᠢ ᠦᠨᠳᠦᠰᠦᠲᠡᠨ ᠦ ᠰᠤᠷᠭᠠᠯ ᠬᠦᠮᠦᠵᠢᠯ ᠢ ᠳᠡᠭᠡᠭᠰᠢᠯᠡᠭᠦᠯᠬᠦ ᠳᠦ ᠴᠢᠬᠤᠯᠠ ᠠᠴᠠ ᠤᠯᠤᠰ ᠲᠥᠷᠦ ᠶᠢᠨ ᠪᠣᠳᠯᠣᠭ᠎ᠠ ᠶᠢ ᠬᠡᠷᠡᠭᠵᠢᠭᠦᠯᠬᠦ ᠃ ᠮᠣᠩᠭᠣᠯ ᠦᠨᠳᠦᠰᠦᠲᠡᠨ ᠦ ᠦᠯᠡᠮᠵᠢ ᠰᠣᠶᠣᠯ ᠢ ᠬᠠᠮᠠᠭᠠᠯᠠᠨ ᠬᠥᠭᠵᠢᠭᠦᠯᠬᠦ ᠶᠢᠨ ᠲᠥᠯᠦᠭᠡ ᠶᠡᠬᠡ ᠠᠵᠢᠯ ᠢ ᠶᠠᠪᠤᠭᠤᠯᠵᠤ ᠪᠠᠶᠢᠨ᠎ᠠ ᠃ ᠡᠨᠡ ᠨᠢ ᠦᠨᠳᠦᠰᠦᠲᠡᠨ ᠦ ᠰᠤᠷᠭᠠᠯ ᠬᠦᠮᠦᠵᠢᠯ ᠢ ᠳᠡᠭᠡᠭᠰᠢᠯᠡᠭᠦᠯᠬᠦ ᠳᠦ ᠴᠢᠬᠤᠯᠠ ᠠᠴᠠ ᠤᠯᠤᠰ ᠲᠥᠷᠦ ᠶᠢᠨ ᠪᠣᠳᠯᠣᠭ᠎ᠠ ᠶᠢ ᠬᠡᠷᠡᠭᠵᠢᠭᠦᠯᠬᠦ ᠃ ᠮᠣᠩᠭᠣᠯ ᠦᠨᠳᠦᠰᠦᠲᠡᠨ ᠦ ᠦᠯᠡᠮᠵᠢ ᠰᠣᠶᠣᠯ ᠢ ᠬᠠᠮᠠᠭᠠᠯᠠᠨ ᠬᠥᠭᠵᠢᠭᠦᠯᠬᠦ ᠶᠢᠨ ᠲᠥᠯᠦᠭᠡ ᠶᠡᠬᠡ ᠠᠵᠢᠯ ᠢ ᠶᠠᠪᠤᠭᠤᠯᠵᠤ ᠪᠠᠶᠢᠨ᠎ᠠ ᠃ ᠡᠨᠡ ᠨᠢ ᠦᠨᠳᠦᠰᠦᠲᠡᠨ ᠦ ᠰᠤᠷᠭᠠᠯ ᠬᠦᠮᠦᠵᠢᠯ ᠢ ᠳᠡᠭᠡᠭᠰᠢᠯᠡᠭᠦᠯᠬᠦ ᠳᠦ ᠴᠢᠬᠤᠯᠠ ᠠᠴᠠ ᠤᠯᠤᠰ ᠲᠥᠷᠦ ᠶᠢᠨ ᠪᠣᠳᠯᠣᠭ᠎ᠠ ᠶᠢ ᠬᠡᠷᠡᠭᠵᠢᠭᠦᠯᠬᠦ ᠃ ᠮᠣᠩᠭᠣᠯ ᠦᠨᠳᠦᠰᠦᠲᠡᠨ ᠦ ᠦᠯᠡᠮᠵᠢ ᠰᠣᠶᠣᠯ ᠢ ᠬᠠᠮᠠᠭᠠᠯᠠᠨ ᠬᠥᠭᠵᠢᠭᠦᠯᠬᠦ ᠶᠢᠨ ᠲᠥᠯᠦᠭᠡ ᠶᠡᠬᠡ ᠠᠵᠢᠯ ᠢ ᠶᠠᠪᠤᠭᠤᠯᠵᠤ ᠪᠠᠶᠢᠨ᠎ᠠ ᠃ ᠡᠨᠡ ᠨᠢ ᠦᠨᠳᠦᠰᠦᠲᠡᠨ ᠦ ᠰᠤᠷᠭᠠᠯ ᠬᠦᠮᠦᠵᠢᠯ ᠢ ᠳᠡᠭᠡᠭᠰᠢᠯᠡᠭᠦᠯᠬᠦ ᠳᠦ ᠴᠢᠬᠤᠯᠠ ᠠᠴᠠ ᠤᠯᠤᠰ ᠲᠥᠷᠦ ᠶᠢᠨ ᠪᠣᠳᠯᠣᠭ᠎ᠠ ᠶᠢ ᠬᠡᠷᠡᠭᠵᠢᠭᠦᠯᠬᠦ ᠃ ᠮᠣᠩᠭᠣᠯ ᠦᠨᠳᠦᠰᠦᠲᠡᠨ ᠦ ᠦᠯᠡᠮᠵᠢ ᠰᠣᠶᠣᠯ ᠢ ᠬᠠᠮᠠᠭᠠᠯᠠᠨ ᠬᠥᠭᠵᠢᠭᠦᠯᠬᠦ ᠶᠢᠨ ᠲᠥᠯᠦᠭᠡ ᠶᠡᠬᠡ ᠠᠵᠢᠯ ᠢ ᠶᠠᠪᠤᠭᠤᠯᠵᠤ ᠪᠠᠶᠢᠨ᠎ᠠ ᠃ ᠡᠨᠡ ᠨᠢ ᠦᠨᠳᠦᠰᠦᠲᠡᠨ ᠦ ᠰᠤᠷᠭᠠᠯ ᠬᠦᠮᠦᠵᠢᠯ ᠢ ᠳᠡᠭᠡᠭᠰᠢᠯᠡᠭᠦᠯᠬᠦ ᠳᠦ ᠴᠢᠬᠤᠯᠠ ᠠᠴᠠ ᠤᠯᠤᠰ ᠲᠥᠷᠦ ᠶᠢᠨ ᠪᠣᠳᠯᠣᠭ᠎ᠠ ᠶᠢ ᠬᠡᠷᠡᠭᠵᠢᠭᠦᠯᠬᠦ ᠃ ᠮᠣᠩᠭᠣᠯ ᠦᠨᠳᠦᠰᠦᠲᠡᠨ ᠦ ᠦᠯᠡᠮᠵᠢ ᠰᠣᠶᠣᠯ ᠢ ᠬᠠᠮᠠᠭᠠᠯᠠᠨ ᠬᠥᠭᠵᠢᠭᠦᠯᠬᠦ ᠶᠢᠨ ᠲᠥᠯᠦᠭᠡ ᠶᠡᠬᠡ ᠠᠵᠢᠯ ᠢ ᠶᠠᠪᠤᠭᠤᠯᠵᠤ ᠪᠠᠶᠢᠨ᠎ᠠ ᠃ ᠡᠨᠡ ᠨᠢ ᠦᠨᠳᠦᠰᠦᠲᠡᠨ ᠦ ᠰᠤᠷᠭᠠᠯ ᠬᠦᠮᠦᠵᠢᠯ ᠢ ᠳᠡᠭᠡᠭᠰᠢᠯᠡᠭᠦᠯᠬᠦ ᠳᠦ ᠴᠢᠬᠤᠯᠠ ᠠᠴᠠ ᠤᠯᠤᠰ ᠲᠥᠷᠦ ᠶᠢᠨ ᠪᠣᠳᠯᠣᠭ᠎ᠠ ᠶᠢ ᠬᠡᠷᠡᠭᠵᠢᠭᠦᠯᠬᠦ ᠃ ᠮᠣᠩᠭᠣᠯ ᠪᠢᠴᠢᠭ ᠦᠨ ᠰᠤᠷᠭᠠᠯ ᠬᠦᠮᠦᠵᠢᠯ ᠦᠨ ᠬᠥᠭᠵᠢᠯ ᠮᠣᠩᠭᠣᠯ ᠪᠢᠴᠢᠭ ᠦᠨ ᠰᠤᠷᠭᠠᠯ ᠬᠦᠮᠦᠵᠢᠯ ᠦᠨ ᠬᠥᠭᠵᠢᠯ ᠮᠣᠩᠭᠣᠯ ᠪᠢᠴᠢᠭ ᠦᠨ ᠰᠤᠷᠭᠠᠯ ᠬᠦᠮᠦᠵᠢᠯ ᠦᠨ ᠬᠥᠭᠵᠢᠯ ᠮᠣᠩᠭᠣᠯ ᠪᠢᠴᠢᠭ ᠦᠨ ᠰᠤᠷᠭᠠᠯ ᠬᠦᠮᠦᠵᠢᠯ ᠦᠨ ᠬᠥᠭᠵᠢᠯ ᠮᠣᠩᠭᠣᠯ ᠪᠢᠴᠢᠭ ᠦᠨ ᠰᠤᠷᠭᠠᠯ ᠬᠦᠮᠦᠵᠢᠯ ᠦᠨ ᠬᠥᠭᠵᠢᠯ ᠮᠣᠩᠭᠣᠯ ᠪᠢᠴᠢᠭ ᠦᠨ ᠰᠤᠷᠭᠠᠯ ᠬᠦᠮᠦᠵᠢᠯ ᠦᠨ ᠬᠥᠭᠵᠢᠯ ᠮᠣᠩᠭᠣᠯ ᠪᠢᠴᠢᠭ ᠦᠨ ᠰᠤᠷᠭᠠᠯ ᠬᠦᠮᠦᠵᠢᠯ ᠦᠨ ᠬᠥᠭᠵᠢᠯ ᠮᠣᠩᠭᠣᠯ ᠪᠢᠴᠢᠭ ᠦᠨ ᠰᠤᠷᠭᠠᠯ ᠬᠦᠮᠦᠵᠢᠯ ᠦᠨ ᠬᠥᠭᠵᠢᠯ ᠮᠣᠩᠭᠣᠯ ᠦᠨᠳᠦᠰᠦᠲᠡᠨ ᠦ ᠦᠯᠡᠮᠵᠢ ᠰᠣᠶᠣᠯ ᠢ ᠬᠠᠮᠠᠭᠠᠯᠠᠨ ᠬᠥᠭᠵᠢᠭᠦᠯᠬᠦ ᠶᠢᠨ ᠲᠥᠯᠦᠭᠡ ᠶᠡᠬᠡ ᠠᠵᠢᠯ ᠢ ᠶᠠᠪᠤᠭᠤᠯᠵᠤ ᠪᠠᠶᠢᠨ᠎ᠠ ᠃ ᠡᠨᠡ ᠨᠢ ᠦᠨᠳᠦᠰᠦᠲᠡᠨ ᠦ ᠰᠤᠷᠭᠠᠯ ᠬᠦᠮᠦᠵᠢᠯ ᠢ ᠳᠡᠭᠡᠭᠰᠢᠯᠡᠭᠦᠯᠬᠦ ᠳᠦ ᠴᠢᠬᠤᠯᠠ ᠠᠴᠠ ᠤᠯᠤᠰ ᠲᠥᠷᠦ ᠶᠢᠨ ᠪᠣᠳᠯᠣᠭ᠎ᠠ ᠶᠢ ᠬᠡᠷᠡᠭᠵᠢᠭᠦᠯᠬᠦ ᠃ ᠮᠣᠩᠭᠣᠯ ᠦᠨᠳᠦᠰᠦᠲᠡᠨ ᠦ ᠦᠯᠡᠮᠵᠢ ᠰᠣᠶᠣᠯ ᠢ ᠬᠠᠮᠠᠭᠠᠯᠠᠨ ᠬᠥᠭᠵᠢᠭᠦᠯᠬᠦ ᠶᠢᠨ ᠲᠥᠯᠦᠭᠡ ᠶᠡᠬᠡ ᠠᠵᠢᠯ ᠢ ᠶᠠᠪᠤᠭᠤᠯᠵᠤ ᠪᠠᠶᠢᠨ᠎ᠠ ᠃ ᠡᠨᠡ ᠨᠢ ᠦᠨᠳᠦᠰᠦᠲᠡᠨ ᠦ ᠰᠤᠷᠭᠠᠯ ᠬᠦᠮᠦᠵᠢᠯ ᠢ ᠳᠡᠭᠡᠭᠰᠢᠯᠡᠭᠦᠯᠬᠦ ᠳᠦ ᠴᠢᠬᠤᠯᠠ ᠠᠴᠠ ᠤᠯᠤᠰ ᠲᠥᠷᠦ ᠶᠢᠨ ᠪᠣᠳᠯᠣᠭ᠎ᠠ ᠶᠢ ᠬᠡᠷᠡᠭᠵᠢᠭᠦᠯᠬᠦ ᠃ ᠮᠣᠩᠭᠣᠯ ᠦᠨᠳᠦᠰᠦᠲᠡᠨ ᠦ ᠦᠯᠡᠮᠵᠢ ᠰᠣᠶᠣᠯ ᠢ ᠬᠠᠮᠠᠭᠠᠯᠠᠨ ᠬᠥᠭᠵᠢᠭᠦᠯᠬᠦ ᠶᠢᠨ ᠲᠥᠯᠦᠭᠡ ᠶᠡᠬᠡ ᠠᠵᠢᠯ ᠢ ᠶᠠᠪᠤᠭᠤᠯᠵᠤ ᠪᠠᠶᠢᠨ᠎ᠠ ᠃ ᠡᠨᠡ ᠨᠢ ᠦᠨᠳᠦᠰᠦᠲᠡᠨ ᠦ ᠰᠤᠷᠭᠠᠯ ᠬᠦᠮᠦᠵᠢᠯ ᠢ ᠳᠡᠭᠡᠭᠰᠢᠯᠡᠭᠦᠯᠬᠦ ᠳᠦ ᠴᠢᠬᠤᠯᠠ ᠠᠴᠠ ᠤᠯᠤᠰ ᠲᠥᠷᠦ ᠶᠢᠨ ᠪᠣᠳᠯᠣᠭ᠎ᠠ ᠶᠢ ᠬᠡᠷᠡᠭᠵᠢᠭᠦᠯᠬᠦ ᠃ ᠮᠣᠩᠭᠣᠯ ᠦᠨᠳᠦᠰᠦᠲᠡᠨ ᠦ ᠦᠯᠡᠮᠵᠢ ᠰᠣᠶᠣᠯ ᠢ ᠬᠠᠮᠠᠭᠠᠯᠠᠨ ᠬᠥᠭᠵᠢᠭᠦᠯᠬᠦ ᠶᠢᠨ ᠲᠥᠯᠦᠭᠡ ᠶᠡᠬᠡ ᠠᠵᠢᠯ ᠢ ᠶᠠᠪᠤᠭᠤᠯᠵᠤ ᠪᠠᠶᠢᠨ᠎ᠠ ᠃ ᠡᠨᠡ ᠨᠢ ᠦᠨᠳᠦᠰᠦᠲᠡᠨ ᠦ ᠰᠤᠷᠭᠠᠯ ᠬᠦᠮᠦᠵᠢᠯ ᠢ ᠳᠡᠭᠡᠭᠰᠢᠯᠡᠭᠦᠯᠬᠦ ᠳᠦ ᠴᠢᠬᠤᠯᠠ ᠠᠴᠠ ᠤᠯᠤᠰ ᠲᠥᠷᠦ ᠶᠢᠨ ᠪᠣᠳᠯᠣᠭ᠎ᠠ ᠶᠢ ᠬᠡᠷᠡᠭᠵᠢᠭᠦᠯᠬᠦ ᠃ ᠮᠣᠩᠭᠣᠯ ᠦᠨᠳᠦᠰᠦᠲᠡᠨ ᠦ ᠦᠯᠡᠮᠵᠢ ᠰᠣᠶᠣᠯ ᠢ ᠬᠠᠮᠠᠭᠠᠯᠠᠨ ᠬᠥᠭᠵᠢᠭᠦᠯᠬᠦ ᠶᠢᠨ ᠲᠥᠯᠦᠭᠡ ᠶᠡᠬᠡ ᠠᠵᠢᠯ ᠢ ᠶᠠᠪᠤᠭᠤᠯᠵᠤ ᠪᠠᠶᠢᠨ᠎ᠠ ᠃ ᠡᠨᠡ ᠨᠢ ᠦᠨᠳᠦᠰᠦᠲᠡᠨ ᠦ ᠰᠤᠷᠭᠠᠯ ᠬᠦᠮᠦᠵᠢᠯ ᠢ ᠳᠡᠭᠡᠭᠰᠢᠯᠡᠭᠦᠯᠬᠦ ᠳᠦ ᠴᠢᠬᠤᠯᠠ ᠠᠴᠠ ᠤᠯᠤᠰ ᠲᠥᠷᠦ ᠶᠢᠨ ᠪᠣᠳᠯᠣᠭ᠎ᠠ ᠶᠢ ᠬᠡᠷᠡᠭᠵᠢᠭᠦᠯᠬᠦ ᠃ ᠮᠣᠩᠭᠣᠯ ᠦᠨᠳᠦᠰᠦᠲᠡᠨ ᠦ ᠦᠯᠡᠮᠵᠢ ᠰᠣᠶᠣᠯ ᠢ ᠬᠠᠮᠠᠭᠠᠯᠠᠨ ᠬᠥᠭᠵᠢᠭᠦᠯᠬᠦ ᠶᠢᠨ ᠲᠥᠯᠦᠭᠡ ᠶᠡᠬᠡ ᠠᠵᠢᠯ ᠢ ᠶᠠᠪᠤᠭᠤᠯᠵᠤ ᠪᠠᠶᠢᠨ᠎ᠠ ᠃ ᠡᠨᠡ ᠨᠢ ᠦᠨᠳᠦᠰᠦᠲᠡᠨ ᠦ ᠰᠤᠷᠭᠠᠯ ᠬᠦᠮᠦᠵᠢᠯ ᠢ ᠳᠡᠭᠡᠭᠰᠢᠯᠡᠭᠦᠯᠬᠦ ᠳᠦ ᠴᠢᠬᠤᠯᠠ ᠠᠴᠠ ᠤᠯᠤᠰ ᠲᠥᠷᠦ ᠶᠢᠨ ᠪᠣᠳᠯᠣᠭ᠎ᠠ ᠶᠢ ᠬᠡᠷᠡᠭᠵᠢᠭᠦᠯᠬᠦ ᠃ ᠮᠣᠩᠭᠣᠯ ᠦᠨᠳᠦᠰᠦᠲᠡᠨ ᠦ ᠦᠯᠡᠮᠵᠢ ᠰᠣᠶᠣᠯ ᠢ ᠬᠠᠮᠠᠭᠠᠯᠠᠨ ᠬᠥᠭᠵᠢᠭᠦᠯᠬᠦ ᠶᠢᠨ ᠲᠥᠯᠦᠭᠡ ᠶᠡᠬᠡ ᠠᠵᠢᠯ ᠢ ᠶᠠᠪᠤᠭᠤᠯᠵᠤ ᠪᠠᠶᠢᠨ᠎ᠠ ᠃ ᠡᠨᠡ ᠨᠢ ᠦᠨᠳᠦᠰᠦᠲᠡᠨ ᠦ ᠰᠤᠷᠭᠠᠯ ᠬᠦᠮᠦᠵᠢᠯ ᠢ ᠳᠡᠭᠡᠭᠰᠢᠯᠡᠭᠦᠯᠬᠦ ᠳᠦ ᠴᠢᠬᠤᠯᠠ ᠠᠴᠠ ᠤᠯᠤᠰ ᠲᠥᠷᠦ ᠶᠢᠨ ᠪᠣᠳᠯᠣᠭ᠎ᠠ ᠶᠢ ᠬᠡᠷᠡᠭᠵᠢᠭᠦᠯᠬᠦ ᠃ ᠮᠣᠩᠭᠣᠯ ᠦᠨᠳᠦᠰᠦᠲᠡᠨ ᠦ ᠦᠯᠡᠮᠵᠢ ᠰᠣᠶᠣᠯ ᠢ ᠬᠠᠮᠠᠭᠠᠯᠠᠨ ᠬᠥᠭᠵᠢᠭᠦᠯᠬᠦ ᠶᠢᠨ ᠲᠥᠯᠦᠭᠡ ᠶᠡᠬᠡ ᠠᠵᠢᠯ ᠢ ᠶᠠᠪᠤᠭᠤᠯᠵᠤ ᠪᠠᠶᠢᠨ᠎ᠠ ᠃ ᠡᠨᠡ ᠨᠢ ᠦᠨᠳᠦᠰᠦᠲᠡᠨ ᠦ ᠰᠤᠷᠭᠠᠯ ᠬᠦᠮᠦᠵᠢᠯ ᠢ ᠳᠡᠭᠡᠭᠰᠢᠯᠡᠭᠦᠯᠬᠦ ᠳᠦ ᠴᠢᠬᠤᠯᠠ ᠠᠴᠠ ᠤᠯᠤᠰ ᠲᠥᠷᠦ ᠶᠢᠨ ᠪᠣᠳᠯᠣᠭ᠎ᠠ ᠶᠢ ᠬᠡᠷᠡᠭᠵᠢᠭᠦᠯᠬᠦ ᠃ ᠮᠣᠩᠭᠣᠯ ᠦᠨᠳᠦᠰᠦᠲᠡᠨ ᠦ ᠦᠯᠡᠮᠵᠢ ᠰᠣᠶᠣᠯ ᠢ ᠬᠠᠮᠠᠭᠠᠯᠠᠨ ᠬᠥᠭᠵᠢᠭᠦᠯᠬᠦ ᠶᠢᠨ ᠲᠥᠯᠦᠭᠡ ᠶᠡᠬᠡ ᠠᠵᠢᠯ ᠢ ᠶᠠᠪᠤᠭᠤᠯᠵᠤ ᠪᠠᠶᠢᠨ᠎ᠠ ᠃ ᠡᠨᠡ ᠨᠢ ᠦᠨᠳᠦᠰᠦᠲᠡᠨ ᠦ ᠰᠤᠷᠭᠠᠯ ᠬᠦᠮᠦᠵᠢᠯ ᠢ ᠳᠡᠭᠡᠭᠰᠢᠯᠡᠭᠦᠯᠬᠦ ᠳᠦ ᠴᠢᠬᠤᠯᠠ ᠠᠴᠠ ᠤᠯᠤᠰ ᠲᠥᠷᠦ ᠶᠢᠨ ᠪᠣᠳᠯᠣᠭ᠎ᠠ ᠶᠢ ᠬᠡᠷᠡᠭᠵᠢᠭᠦᠯᠬᠦ ᠃ ᠮᠣᠩᠭᠣᠯ ᠦᠨᠳᠦᠰᠦᠲᠡᠨ ᠦ ᠦᠯᠡᠮᠵᠢ ᠰᠣᠶᠣᠯ ᠢ ᠬᠠᠮᠠᠭᠠᠯᠠᠨ ᠬᠥᠭᠵᠢᠭᠦᠯᠬᠦ ᠶᠢᠨ ᠲᠥᠯᠦᠭᠡ ᠶᠡᠬᠡ ᠠᠵᠢᠯ ᠢ ᠶᠠᠪᠤᠭᠤᠯᠵᠤ ᠪᠠᠶᠢᠨ᠎ᠠ ᠃ ᠡᠨᠡ ᠨᠢ ᠦᠨᠳᠦᠰᠦᠲᠡᠨ ᠦ ᠰᠤᠷᠭᠠᠯ ᠬᠦᠮᠦᠵᠢᠯ ᠢ ᠳᠡᠭᠡᠭᠰᠢᠯᠡᠭᠦᠯᠬᠦ ᠳᠦ ᠴᠢᠬᠤᠯᠠ ᠠᠴᠠ ᠤᠯᠤᠰ ᠲᠥᠷᠦ ᠶᠢᠨ ᠪᠣᠳᠯᠣᠭ᠎ᠠ ᠶᠢ ᠬᠡᠷᠡᠭᠵᠢᠭᠦᠯᠬᠦ ᠃ ᠮᠣᠩᠭᠣᠯ ᠦᠨᠳᠦᠰᠦᠲᠡᠨ ᠦ ᠦᠯᠡᠮᠵᠢ ᠰᠣᠶᠣᠯ ᠢ ᠬᠠᠮᠠᠭᠠᠯᠠᠨ ᠬᠥᠭᠵᠢᠭᠦᠯᠬᠦ ᠶᠢᠨ ᠲᠥᠯᠦᠭᠡ ᠶᠡᠬᠡ ᠠᠵᠢᠯ ᠢ ᠶᠠᠪᠤᠭᠤᠯᠵᠤ ᠪᠠᠶᠢᠨ᠎ᠠ ᠃ ᠡᠨᠡ ᠨᠢ ᠦᠨᠳᠦᠰᠦᠲᠡᠨ ᠦ ᠰᠤᠷᠭᠠᠯ ᠬᠦᠮᠦᠵᠢᠯ ᠢ ᠳᠡᠭᠡᠭᠰᠢᠯᠡᠭᠦᠯᠬᠦ ᠳᠦ ᠴᠢᠬᠤᠯᠠ ᠠᠴᠠ ᠤᠯᠤᠰ ᠲᠥᠷᠦ ᠶᠢᠨ ᠪᠣᠳᠯᠣᠭ᠎ᠠ ᠶᠢ ᠬᠡᠷᠡᠭᠵᠢᠭᠦᠯᠬᠦ ᠃ ᠮᠣᠩᠭᠣᠯ ᠦᠨᠳᠦᠰᠦᠲᠡᠨ ᠦ ᠦᠯᠡᠮᠵᠢ ᠰᠣᠶᠣᠯ ᠢ ᠬᠠᠮᠠᠭᠠᠯᠠᠨ ᠬᠥᠭᠵᠢᠭᠦᠯᠬᠦ ᠶᠢᠨ ᠲᠥᠯᠦᠭᠡ ᠶᠡᠬᠡ ᠠᠵᠢᠯ ᠢ ᠶᠠᠪᠤᠭᠤᠯᠵᠤ ᠪᠠᠶᠢᠨ᠎ᠠ ᠃ ᠡᠨᠡ ᠨᠢ ᠦᠨᠳᠦᠰᠦᠲᠡᠨ ᠦ ᠰᠤᠷᠭᠠᠯ ᠬᠦᠮᠦᠵᠢᠯ ᠢ ᠳᠡᠭᠡᠭᠰᠢᠯᠡᠭᠦᠯᠬᠦ ᠳᠦ ᠴᠢᠬᠤᠯᠠ ᠠᠴᠠ ᠤᠯᠤᠰ ᠲᠥᠷᠦ ᠶᠢᠨ ᠪᠣᠳᠯᠣᠭ᠎ᠠ ᠶᠢ ᠬᠡᠷᠡᠭᠵᠢᠭᠦᠯᠬᠦ ᠃ ᠮᠣᠩᠭᠣᠯ ᠦᠨᠳᠦᠰᠦᠲᠡᠨ ᠦ ᠦᠯᠡᠮᠵᠢ ᠰᠣᠶᠣᠯ ᠢ ᠬᠠᠮᠠᠭᠠᠯᠠᠨ ᠬᠥᠭᠵᠢᠭᠦᠯᠬᠦ ᠶᠢᠨ ᠲᠥᠯᠦᠭᠡ ᠶᠡᠬᠡ ᠠᠵᠢᠯ ᠢ ᠶᠠᠪᠤᠭᠤᠯᠵᠤ ᠪᠠᠶᠢᠨ᠎ᠠ ᠃ ᠡᠨᠡ ᠨᠢ ᠦᠨᠳᠦᠰᠦᠲᠡᠨ ᠦ ᠰᠤᠷᠭᠠᠯ ᠬᠦᠮᠦᠵᠢᠯ ᠢ ᠳᠡᠭᠡᠭᠰᠢᠯᠡᠭᠦᠯᠬᠦ ᠳᠦ ᠴᠢᠬᠤᠯᠠ ᠠᠴᠠ ᠤᠯᠤᠰ ᠲᠥᠷᠦ ᠶᠢᠨ ᠪᠣᠳᠯᠣᠭ᠎ᠠ ᠶᠢ ᠬᠡᠷᠡᠭᠵᠢᠭᠦᠯᠬᠦ ᠃ ᠮᠣᠩᠭᠣᠯ ᠦᠨᠳᠦᠰᠦᠲᠡᠨ ᠦ ᠦᠯᠡᠮᠵᠢ ᠰᠣᠶᠣᠯ ᠢ ᠬᠠᠮᠠᠭᠠᠯᠠᠨ ᠬᠥᠭᠵᠢᠭᠦᠯᠬᠦ ᠶᠢᠨ ᠲᠥᠯᠦᠭᠡ ᠶᠡᠬᠡ ᠠᠵᠢᠯ ᠢ ᠶᠠᠪᠤᠭᠤᠯᠵᠤ ᠪᠠᠶᠢᠨ᠎ᠠ ᠃ ᠡᠨᠡ ᠨᠢ ᠦᠨᠳᠦᠰᠦᠲᠡᠨ ᠦ ᠰᠤᠷᠭᠠᠯ ᠬᠦᠮᠦᠵᠢᠯ ᠢ ᠳᠡᠭᠡᠭᠰᠢᠯᠡᠭᠦᠯᠬᠦ ᠳᠦ ᠴᠢᠬᠤᠯᠠ ᠠᠴᠠ ᠤᠯᠤᠰ ᠲᠥᠷᠦ ᠶᠢᠨ ᠪᠣᠳᠯᠣᠭ᠎ᠠ ᠶᠢ ᠬᠡᠷᠡᠭᠵᠢᠭᠦᠯᠬᠦ ᠃ ᠮᠣᠩᠭᠣᠯ ᠦᠨᠳᠦᠰᠦᠲᠡᠨ ᠦ ᠦᠯᠡᠮᠵᠢ ᠰᠣᠶᠣᠯ ᠢ ᠬᠠᠮᠠᠭᠠᠯᠠᠨ ᠬᠥᠭᠵᠢᠭᠦᠯᠬᠦ ᠶᠢᠨ ᠲᠥᠯᠦᠭᠡ ᠶᠡᠬᠡ ᠠᠵᠢᠯ ᠢ ᠶᠠᠪᠤᠭᠤᠯᠵᠤ ᠪᠠᠶᠢᠨ᠎ᠠ ᠃ ᠡᠨᠡ ᠨᠢ ᠦᠨᠳᠦᠰᠦᠲᠡᠨ ᠦ ᠰᠤᠷᠭᠠᠯ ᠬᠦᠮᠦᠵᠢᠯ ᠢ ᠳᠡᠭᠡᠭᠰᠢᠯᠡᠭᠦᠯᠬᠦ ᠳᠦ ᠴᠢᠬᠤᠯᠠ ᠠᠴᠠ ᠤᠯᠤᠰ ᠲᠥᠷᠦ ᠶᠢᠨ ᠪᠣᠳᠯᠣᠭ᠎ᠠ ᠶᠢ ᠬᠡᠷᠡᠭᠵᠢᠭᠦᠯᠬᠦ ᠃ ᠮᠣᠩᠭᠣᠯ ᠦᠨᠳᠦᠰᠦᠲᠡᠨ ᠦ ᠦᠯᠡᠮᠵᠢ ᠰᠣᠶᠣᠯ ᠢ ᠬᠠᠮᠠᠭᠠᠯᠠᠨ ᠬᠥᠭᠵᠢᠭᠦᠯᠬᠦ ᠶᠢᠨ ᠲᠥᠯᠦᠭᠡ ᠶᠡᠬᠡ ᠠᠵᠢᠯ ᠢ ᠶᠠᠪᠤᠭᠤᠯᠵᠤ ᠪᠠᠶᠢᠨ᠎ᠠ ᠃ ᠡᠨᠡ ᠨᠢ ᠦᠨᠳᠦᠰᠦᠲᠡᠨ ᠦ ᠰᠤᠷᠭᠠᠯ ᠬᠦᠮᠦᠵᠢᠯ ᠢ ᠳᠡᠭᠡᠭᠰᠢᠯᠡᠭᠦᠯᠬᠦ ᠳᠦ ᠴᠢᠬᠤᠯᠠ ᠠᠴᠠ ᠤᠯᠤᠰ ᠲᠥᠷᠦ ᠶᠢᠨ ᠪᠣᠳᠯᠣᠭ᠎ᠠ ᠶᠢ ᠬᠡᠷᠡᠭᠵᠢᠭᠦᠯᠬᠦ ᠃ ᠮᠣᠩᠭᠣᠯ ᠦᠨᠳᠦᠰᠦᠲᠡᠨ ᠦ ᠦᠯᠡᠮᠵᠢ ᠰᠣᠶᠣᠯ ᠢ ᠬᠠᠮᠠᠭᠠᠯᠠᠨ ᠬᠥᠭᠵᠢᠭᠦᠯᠬᠦ ᠶᠢᠨ ᠲᠥᠯᠦᠭᠡ ᠶᠡᠬᠡ ᠠᠵᠢᠯ ᠢ ᠶᠠᠪᠤᠭᠤᠯᠵᠤ ᠪᠠᠶᠢᠨ᠎ᠠ ᠃ ᠡᠨᠡ ᠨᠢ ᠦᠨᠳᠦᠰᠦᠲᠡᠨ ᠦ ᠰᠤᠷᠭᠠᠯ ᠬᠦᠮᠦᠵᠢᠯ ᠢ ᠳᠡᠭᠡᠭᠰᠢᠯᠡᠭᠦᠯᠬᠦ ᠳᠦ ᠴᠢᠬᠤᠯᠠ ᠠᠴᠠ ᠤᠯᠤᠰ ᠲᠥᠷᠦ ᠶᠢᠨ ᠪᠣᠳᠯᠣᠭ᠎ᠠ ᠶᠢ ᠬᠡᠷᠡᠭᠵᠢᠭᠦᠯᠬᠦ ᠃ ᠮᠣᠩᠭᠣᠯ ᠦᠨᠳᠦᠰᠦᠲᠡᠨ ᠦ ᠦᠯᠡᠮᠵᠢ ᠰᠣᠶᠣᠯ ᠢ ᠬᠠᠮᠠᠭᠠᠯᠠᠨ ᠬᠥᠭᠵᠢᠭᠦᠯᠬᠦ ᠶᠢᠨ ᠲᠥᠯᠦᠭᠡ ᠶᠡᠬᠡ ᠠᠵᠢᠯ ᠢ ᠶᠠᠪᠤᠭᠤᠯᠵᠤ ᠪᠠᠶᠢᠨ᠎ᠠ ᠃ ᠡᠨᠡ ᠨᠢ ᠦᠨᠳᠦᠰᠦᠲᠡᠨ ᠦ ᠰᠤᠷᠭᠠᠯ ᠬᠦᠮᠦᠵᠢᠯ ᠢ ᠳᠡᠭᠡᠭᠰᠢᠯᠡᠭᠦᠯᠬᠦ ᠳᠦ ᠴᠢᠬᠤᠯᠠ ᠠᠴᠠ ᠤᠯᠤᠰ ᠲᠥᠷᠦ ᠶᠢᠨ ᠪᠣᠳᠯᠣᠭ᠎ᠠ ᠶᠢ ᠬᠡᠷᠡᠭᠵᠢᠭᠦᠯᠬᠦ ᠃ ᠮᠣᠩᠭᠣᠯ ᠦᠨᠳᠦᠰᠦᠲᠡᠨ ᠦ ᠦᠯᠡᠮᠵᠢ ᠰᠣᠶᠣᠯ ᠢ ᠬᠠᠮᠠᠭᠠᠯᠠᠨ ᠬᠥᠭᠵᠢᠭᠦᠯᠬᠦ ᠶᠢᠨ ᠲᠥᠯᠦᠭᠡ ᠶᠡᠬᠡ ᠠᠵᠢᠯ ᠢ ᠶᠠᠪᠤᠭᠤᠯᠵᠤ ᠪᠠᠶᠢᠨ᠎ᠠ ᠃ ᠡᠨᠡ ᠨᠢ ᠦᠨᠳᠦᠰᠦᠲᠡᠨ ᠦ ᠰᠤᠷᠭᠠᠯ ᠬᠦᠮᠦᠵᠢᠯ ᠢ ᠳᠡᠭᠡᠭᠰᠢᠯᠡᠭᠦᠯᠬᠦ ᠳᠦ ᠴᠢᠬᠤᠯᠠ ᠠᠴᠠ ᠤᠯᠤᠰ ᠲᠥᠷᠦ ᠶᠢᠨ ᠪᠣᠳᠯᠣᠭ᠎ᠠ ᠶᠢ ᠬᠡᠷᠡᠭᠵᠢᠭᠦᠯᠬᠦ ᠃ ᠮᠣᠩᠭᠣᠯ ᠦᠨᠳᠦᠰᠦᠲᠡᠨ ᠦ ᠦᠯᠡᠮᠵᠢ ᠰᠣᠶᠣᠯ ᠢ ᠬᠠᠮᠠᠭᠠᠯᠠᠨ ᠬᠥᠭᠵᠢᠭᠦᠯᠬᠦ ᠶᠢᠨ ᠲᠥᠯᠦᠭᠡ ᠶᠡᠬᠡ ᠠᠵᠢᠯ ᠢ ᠶᠠᠪᠤᠭᠤᠯᠵᠤ ᠪᠠᠶᠢᠨ᠎ᠠ ᠃ ᠡᠨᠡ ᠨᠢ ᠦᠨᠳᠦᠰᠦᠲᠡᠨ ᠦ ᠰᠤᠷᠭᠠᠯ ᠬᠦᠮᠦᠵᠢᠯ ᠢ ᠳᠡᠭᠡᠭᠰᠢᠯᠡᠭᠦᠯᠬᠦ ᠳᠦ ᠴᠢᠬᠤᠯᠠ ᠠᠴᠠ ᠤᠯᠤᠰ ᠲᠥᠷᠦ ᠶᠢᠨ ᠪᠣᠳᠯᠣᠭ᠎ᠠ ᠶᠢ ᠬᠡᠷᠡᠭᠵᠢᠭᠦᠯᠬᠦ ᠃ ᠮᠣᠩᠭᠣᠯ ᠦᠨᠳᠦᠰᠦᠲᠡᠨ ᠦ ᠦᠯᠡᠮᠵᠢ ᠰᠣᠶᠣᠯ ᠢ ᠬᠠᠮᠠᠭᠠᠯᠠᠨ ᠬᠥᠭᠵᠢᠭᠦᠯᠬᠦ ᠶᠢᠨ ᠲᠥᠯᠦᠭᠡ ᠶᠡᠬᠡ ᠠᠵᠢᠯ ᠢ ᠶᠠᠪᠤᠭᠤᠯᠵᠤ ᠪᠠᠶᠢᠨ᠎ᠠ ᠃ ᠡᠨᠡ ᠨᠢ ᠦᠨᠳᠦᠰᠦᠲᠡᠨ ᠦ ᠰᠤᠷᠭᠠᠯ ᠬᠦᠮᠦᠵᠢᠯ ᠢ ᠳᠡᠭᠡᠭᠰᠢᠯᠡᠭᠦᠯᠬᠦ ᠳᠦ ᠴᠢᠬᠤᠯᠠ ᠠᠴᠠ ᠤᠯᠤᠰ ᠲᠥᠷᠦ ᠶᠢᠨ ᠪᠣᠳᠯᠣᠭ᠎ᠠ ᠶᠢ ᠬᠡᠷᠡᠭᠵᠢᠭᠦᠯᠬᠦ ᠃ ᠮᠣᠩᠭᠣᠯ ᠦᠨᠳᠦᠰᠦᠲᠡᠨ ᠦ ᠦᠯᠡᠮᠵᠢ ᠰᠣᠶᠣᠯ ᠢ ᠬᠠᠮᠠᠭᠠᠯᠠᠨ ᠬᠥᠭᠵᠢᠭᠦᠯᠬᠦ ᠶᠢᠨ ᠲᠥᠯᠦᠭᠡ ᠶᠡᠬᠡ ᠠᠵᠢᠯ ᠢ ᠶᠠᠪᠤᠭᠤᠯᠵᠤ ᠪᠠᠶᠢᠨ᠎ᠠ ᠃ ᠡᠨᠡ ᠨᠢ ᠦᠨᠳᠦᠰᠦᠲᠡᠨ ᠦ ᠰᠤᠷᠭᠠᠯ ᠬᠦᠮᠦᠵᠢᠯ ᠢ ᠳᠡᠭᠡᠭᠰᠢᠯᠡᠭᠦᠯᠬᠦ ᠳᠦ ᠴᠢᠬᠤᠯᠠ ᠠᠴᠠ ᠤᠯᠤᠰ ᠲᠥᠷᠦ ᠶᠢᠨ ᠪᠣᠳᠯᠣᠭ᠎ᠠ ᠶᠢ ᠬᠡᠷᠡᠭᠵᠢᠭᠦᠯᠬᠦ ᠃ ᠮᠣᠩᠭᠣᠯ ᠦᠨᠳᠦᠰᠦᠲᠡᠨ ᠦ ᠦᠯᠡᠮᠵᠢ ᠰᠣᠶᠣᠯ ᠢ ᠬᠠᠮᠠᠭᠠᠯᠠᠨ ᠬᠥᠭᠵᠢᠭᠦᠯᠬᠦ ᠶᠢᠨ ᠲᠥᠯᠦᠭᠡ ᠶᠡᠬᠡ ᠠᠵᠢᠯ ᠢ ᠶᠠᠪᠤᠭᠤᠯᠵᠤ ᠪᠠᠶᠢᠨ᠎ᠠ ᠃ ᠡᠨᠡ ᠨᠢ ᠦᠨᠳᠦᠰᠦᠲᠡᠨ ᠦ ᠰᠤᠷᠭᠠᠯ ᠬᠦᠮᠦᠵᠢᠯ ᠢ ᠳᠡᠭᠡᠭᠰᠢᠯᠡᠭᠦᠯᠬᠦ ᠳᠦ ᠴᠢᠬᠤᠯᠠ ᠠᠴᠠ ᠤᠯᠤᠰ ᠲᠥᠷᠦ ᠶᠢᠨ ᠪᠣᠳᠯᠣᠭ᠎ᠠ ᠶᠢ ᠬᠡᠷᠡᠭᠵᠢᠭᠦᠯᠬᠦ ᠃ ᠮᠣᠩᠭᠣᠯ ᠦᠨᠳᠦᠰᠦᠲᠡᠨ ᠦ ᠦᠯᠡᠮᠵᠢ ᠰᠣᠶᠣᠯ ᠢ ᠬᠠᠮᠠᠭᠠᠯᠠᠨ ᠬᠥᠭᠵᠢᠭᠦᠯᠬᠦ ᠶᠢᠨ ᠲᠥᠯᠦᠭᠡ ᠶᠡᠬᠡ ᠠᠵᠢᠯ ᠢ ᠶᠠᠪᠤᠭᠤᠯᠵᠤ ᠪᠠᠶᠢᠨ᠎ᠠ ᠃ ᠡᠨᠡ ᠨᠢ ᠦᠨᠳᠦᠰᠦᠲᠡᠨ ᠦ ᠰᠤᠷᠭᠠᠯ ᠬᠦᠮᠦᠵᠢᠯ ᠢ ᠳᠡᠭᠡᠭᠰᠢᠯᠡᠭᠦᠯᠬᠦ ᠳᠦ ᠴᠢᠬᠤᠯᠠ ᠠᠴᠠ ᠤᠯᠤᠰ ᠲᠥᠷᠦ ᠶᠢᠨ ᠪᠣᠳᠯᠣᠭ᠎ᠠ ᠶᠢ ᠬᠡᠷᠡᠭᠵᠢᠭᠦᠯᠬᠦ ᠃ ᠮᠣᠩᠭᠣᠯ ᠦᠨᠳᠦᠰᠦᠲᠡᠨ ᠦ ᠦᠯᠡᠮᠵᠢ ᠰᠣᠶᠣᠯ ᠢ ᠬᠠᠮᠠᠭᠠᠯᠠᠨ ᠬᠥᠭᠵᠢᠭᠦᠯᠬᠦ ᠶᠢᠨ ᠲᠥᠯᠦᠭᠡ ᠶᠡᠬᠡ ᠠᠵᠢᠯ ᠢ ᠶᠠᠪᠤᠭᠤᠯᠵᠤ ᠪᠠᠶᠢᠨ᠎ᠠ ᠃ ᠡᠨᠡ ᠨᠢ ᠦᠨᠳᠦᠰᠦᠲᠡᠨ ᠦ ᠰᠤᠷᠭᠠᠯ ᠬᠦᠮᠦᠵᠢᠯ ᠢ ᠳᠡᠭᠡᠭᠰᠢᠯᠡᠭᠦᠯᠬᠦ ᠳᠦ ᠴᠢᠬᠤᠯᠠ ᠠᠴᠠ ᠤᠯᠤᠰ ᠲᠥᠷᠦ ᠶᠢᠨ ᠪᠣᠳᠯᠣᠭ᠎ᠠ ᠶᠢ ᠬᠡᠷᠡᠭᠵᠢᠭᠦᠯᠬᠦ ᠃ ᠮᠣᠩᠭᠣᠯ ᠦᠨᠳᠦᠰᠦᠲᠡᠨ ᠦ ᠦᠯᠡᠮᠵᠢ ᠰᠣᠶᠣᠯ ᠢ ᠬᠠᠮᠠᠭᠠᠯᠠᠨ ᠬᠥᠭᠵᠢᠭᠦᠯᠬᠦ ᠶᠢᠨ ᠲᠥᠯᠦᠭᠡ ᠶᠡᠬᠡ ᠠᠵᠢᠯ ᠢ ᠶᠠᠪᠤᠭᠤᠯᠵᠤ ᠪᠠᠶᠢᠨ᠎ᠠ ᠃ ᠡᠨᠡ ᠨᠢ ᠦᠨᠳᠦᠰᠦᠲᠡᠨ ᠦ ᠰᠤᠷᠭᠠᠯ ᠬᠦᠮᠦᠵᠢᠯ ᠢ ᠳᠡᠭᠡᠭᠰᠢᠯᠡᠭᠦᠯᠬᠦ ᠳᠦ ᠴᠢᠬᠤᠯᠠ ᠠᠴᠠ ᠤᠯᠤᠰ ᠲᠥᠷᠦ ᠶᠢᠨ ᠪᠣᠳᠯᠣᠭ᠎ᠠ ᠶᠢ ᠬᠡᠷᠡᠭᠵᠢᠭᠦᠯᠬᠦ ᠃ ᠮᠣᠩᠭᠣᠯ ᠦᠨᠳᠦᠰᠦᠲᠡᠨ ᠦ ᠦᠯᠡᠮᠵᠢ ᠰᠣᠶᠣᠯ ᠢ ᠬᠠᠮᠠᠭᠠᠯᠠᠨ ᠬᠥᠭᠵᠢᠭᠦᠯᠬᠦ ᠶᠢᠨ ᠲᠥᠯᠦᠭᠡ ᠶᠡᠬᠡ ᠠᠵᠢᠯ ᠢ ᠶᠠᠪᠤᠭᠤᠯᠵᠤ ᠪᠠᠶᠢᠨ᠎ᠠ ᠃ ᠡᠨᠡ ᠨᠢ ᠦᠨᠳᠦᠰᠦᠲᠡᠨ ᠦ ᠰᠤᠷᠭᠠᠯ ᠬᠦᠮᠦᠵᠢᠯ ᠢ ᠳᠡᠭᠡᠭᠰᠢᠯᠡᠭᠦᠯᠬᠦ ᠳᠦ ᠴᠢᠬᠤᠯᠠ ᠠᠴᠠ ᠤᠯᠤᠰ ᠲᠥᠷᠦ ᠶᠢᠨ ᠪᠣᠳᠯᠣᠭ᠎ᠠ ᠶᠢ ᠬᠡᠷᠡᠭᠵᠢᠭᠦᠯᠬᠦ ᠃ ᠮᠣᠩᠭᠣᠯ ᠦᠨᠳᠦᠰᠦᠲᠡᠨ ᠦ ᠦᠯᠡᠮᠵᠢ ᠰᠣᠶᠣᠯ ᠢ ᠬᠠᠮᠠᠭᠠᠯᠠᠨ ᠬᠥᠭᠵᠢᠭᠦᠯᠬᠦ ᠶᠢᠨ ᠲᠥᠯᠦᠭᠡ ᠶᠡᠬᠡ ᠠᠵᠢᠯ ᠢ ᠶᠠᠪᠤᠭᠤᠯᠵᠤ ᠪᠠᠶᠢᠨ᠎ᠠ ᠃ ᠡᠨᠡ ᠨᠢ ᠦᠨᠳᠦᠰᠦᠲᠡᠨ ᠦ ᠰᠤᠷᠭᠠᠯ ᠬᠦᠮᠦᠵᠢᠯ ᠢ ᠳᠡᠭᠡᠭᠰᠢᠯᠡᠭᠦᠯᠬᠦ ᠳᠦ ᠴᠢᠬᠤᠯᠠ ᠠᠴᠠ ᠤᠯᠤᠰ ᠲᠥᠷᠦ ᠶᠢᠨ ᠪᠣᠳᠯᠣᠭ᠎ᠠ ᠶᠢ ᠬᠡᠷᠡᠭᠵᠢᠭᠦᠯᠬᠦ ᠃ ᠮᠣᠩᠭᠣᠯ ᠦᠨᠳᠦᠰᠦᠲᠡᠨ ᠦ ᠦᠯᠡᠮᠵᠢ ᠰᠣᠶᠣᠯ ᠢ ᠬᠠᠮᠠᠭᠠᠯᠠᠨ ᠬᠥᠭᠵᠢᠭᠦᠯᠬᠦ ᠶᠢᠨ ᠲᠥᠯᠦᠭᠡ ᠶᠡᠬᠡ ᠠᠵᠢᠯ ᠢ ᠶᠠᠪᠤᠭᠤᠯᠵᠤ ᠪᠠᠶᠢᠨ᠎ᠠ ᠃ ᠡᠨᠡ ᠨᠢ ᠦᠨᠳᠦᠰᠦᠲᠡᠨ ᠦ ᠰᠤᠷᠭᠠᠯ ᠬᠦᠮᠦᠵᠢᠯ ᠢ ᠳᠡᠭᠡᠭᠰᠢᠯᠡᠭᠦᠯᠬᠦ ᠳᠦ ᠴᠢᠬᠤᠯᠠ ᠠᠴᠠ ᠤᠯᠤᠰ ᠲᠥᠷᠦ ᠶᠢᠨ ᠪᠣᠳᠯᠣᠭ᠎ᠠ ᠶᠢ ᠬᠡᠷᠡᠭᠵᠢᠭᠦᠯᠬᠦ ᠃ ᠮᠣᠩᠭᠣᠯ ᠦᠨᠳᠦᠰᠦᠲᠡᠨ ᠦ ᠦᠯᠡᠮᠵᠢ ᠰᠣᠶᠣᠯ ᠢ ᠬᠠᠮᠠᠭᠠᠯᠠᠨ ᠬᠥᠭᠵᠢᠭᠦᠯᠬᠦ ᠶᠢᠨ ᠲᠥᠯᠦᠭᠡ ᠶᠡᠬᠡ ᠠᠵᠢᠯ ᠢ ᠶᠠᠪᠤᠭᠤᠯᠵᠤ ᠪᠠᠶᠢᠨ᠎ᠠ ᠃ ᠡᠨᠡ ᠨᠢ ᠦᠨᠳᠦᠰᠦᠲᠡᠨ ᠦ ᠰᠤᠷᠭᠠᠯ ᠬᠦᠮᠦᠵᠢᠯ ᠢ ᠳᠡᠭᠡᠭᠰᠢᠯᠡᠭᠦᠯᠬᠦ ᠳᠦ ᠴᠢᠬᠤᠯᠠ ᠠᠴᠠ ᠤᠯᠤᠰ ᠲᠥᠷᠦ ᠶᠢᠨ ᠪᠣᠳᠯᠣᠭ᠎ᠠ ᠶᠢ ᠬᠡᠷᠡᠭᠵᠢᠭᠦᠯᠬᠦ ᠃ ᠮᠣᠩᠭᠣᠯ ᠦᠨᠳᠦᠰᠦᠲᠡᠨ ᠦ ᠦᠯᠡᠮᠵᠢ ᠰᠣᠶᠣᠯ ᠢ ᠬᠠᠮᠠᠭᠠᠯᠠᠨ ᠬᠥᠭᠵᠢᠭᠦᠯᠬᠦ ᠶᠢᠨ ᠲᠥᠯᠦᠭᠡ ᠶᠡᠬᠡ ᠠᠵᠢᠯ ᠢ ᠶᠠᠪᠤᠭᠤᠯᠵᠤ ᠪᠠᠶᠢᠨ᠎ᠠ ᠃ ᠡᠨᠡ ᠨᠢ ᠦᠨᠳᠦᠰᠦᠲᠡᠨ ᠦ ᠰᠤᠷᠭᠠᠯ ᠬᠦᠮᠦᠵᠢᠯ ᠢ ᠳᠡᠭᠡᠭᠰᠢᠯᠡᠭᠦᠯᠬᠦ ᠳᠦ ᠴᠢᠬᠤᠯᠠ ᠠᠴᠠ ᠤᠯᠤᠰ ᠲᠥᠷᠦ ᠶᠢᠨ ᠪᠣᠳᠯᠣᠭ᠎ᠠ ᠶᠢ ᠬᠡᠷᠡᠭᠵᠢᠭᠦᠯᠬᠦ ᠃ ᠮᠣᠩᠭᠣᠯ ᠦᠨᠳᠦᠰᠦᠲᠡᠨ ᠦ ᠦᠯᠡᠮᠵᠢ ᠰᠣᠶᠣᠯ ᠢ ᠬᠠᠮᠠᠭᠠᠯᠠᠨ ᠬᠥᠭᠵᠢᠭᠦᠯᠬᠦ ᠶᠢᠨ ᠲᠥᠯᠦᠭᠡ ᠶᠡᠬᠡ ᠠᠵᠢᠯ ᠢ ᠶᠠᠪᠤᠭᠤᠯᠵᠤ ᠪᠠᠶᠢᠨ᠎ᠠ ᠃ ᠡᠨᠡ ᠨᠢ ᠦᠨᠳᠦᠰᠦᠲᠡᠨ ᠦ ᠰᠤᠷᠭᠠᠯ ᠬᠦᠮᠦᠵᠢᠯ ᠢ ᠳᠡᠭᠡᠭᠰᠢᠯᠡᠭᠦᠯᠬᠦ ᠳᠦ ᠴᠢᠬᠤᠯᠠ ᠠᠴᠠ ᠤᠯᠤᠰ ᠲᠥᠷᠦ ᠶᠢᠨ ᠪᠣᠳᠯᠣᠭ᠎ᠠ ᠶᠢ ᠬᠡᠷᠡᠭᠵᠢᠭᠦᠯᠬᠦ ᠃ ᠮᠣᠩᠭᠣᠯ ᠦᠨᠳᠦᠰᠦᠲᠡᠨ ᠦ ᠦᠯᠡᠮᠵᠢ ᠰᠣᠶᠣᠯ ᠢ ᠬᠠᠮᠠᠭᠠᠯᠠᠨ ᠬᠥᠭᠵᠢᠭᠦᠯᠬᠦ ᠶᠢᠨ ᠲᠥᠯᠦᠭᠡ ᠶᠡᠬᠡ ᠠᠵᠢᠯ ᠢ ᠶᠠᠪᠤᠭᠤᠯᠵᠤ ᠪᠠᠶᠢᠨ᠎ᠠ ᠃ ᠡᠨᠡ ᠨᠢ ᠦᠨᠳᠦᠰᠦᠲᠡᠨ ᠦ ᠰᠤᠷᠭᠠᠯ ᠬᠦᠮᠦᠵᠢᠯ ᠢ ᠳᠡᠭᠡᠭᠰᠢᠯᠡᠭᠦᠯᠬᠦ ᠳᠦ ᠴᠢᠬᠤᠯᠠ ᠠᠴᠠ ᠤᠯᠤᠰ ᠲᠥᠷᠦ ᠶᠢᠨ ᠪᠣᠳᠯᠣᠭ᠎ᠠ ᠶᠢ ᠬᠡᠷᠡᠭᠵᠢᠭᠦᠯᠬᠦ ᠃ ᠮᠣᠩᠭᠣᠯ ᠦᠨᠳᠦᠰᠦᠲᠡᠨ ᠦ ᠦᠯᠡᠮᠵᠢ ᠰᠣᠶᠣᠯ ᠢ ᠬᠠᠮᠠᠭᠠᠯᠠᠨ ᠬᠥᠭᠵᠢᠭᠦᠯᠬᠦ ᠶᠢᠨ ᠲᠥᠯᠦᠭᠡ ᠶᠡᠬᠡ ᠠᠵᠢᠯ ᠢ ᠶᠠᠪᠤᠭᠤᠯᠵᠤ ᠪᠠᠶᠢᠨ᠎ᠠ ᠃ ᠡᠨᠡ ᠨᠢ ᠦᠨᠳᠦᠰᠦᠲᠡᠨ ᠦ ᠰᠤᠷᠭᠠᠯ ᠬᠦᠮᠦᠵᠢᠯ ᠢ ᠳᠡᠭᠡᠭᠰᠢᠯᠡᠭᠦᠯᠬᠦ ᠳᠦ ᠴᠢᠬᠤᠯᠠ ᠠᠴᠠ ᠤᠯᠤᠰ ᠲᠥᠷᠦ ᠶᠢᠨ ᠪᠣᠳᠯᠣᠭ᠎ᠠ ᠶᠢ ᠬᠡᠷᠡᠭᠵᠢᠭᠦᠯᠬᠦ ᠃ ᠮᠣᠩᠭᠣᠯ ᠦᠨᠳᠦᠰᠦᠲᠡᠨ ᠦ ᠦᠯᠡᠮᠵᠢ ᠰᠣᠶᠣᠯ ᠢ ᠬᠠᠮᠠᠭᠠᠯᠠᠨ ᠬᠥᠭᠵᠢᠭᠦᠯᠬᠦ ᠶᠢᠨ ᠲᠥᠯᠦᠭᠡ ᠶᠡᠬᠡ ᠠᠵᠢᠯ ᠢ ᠶᠠᠪᠤᠭᠤᠯᠵᠤ ᠪᠠᠶᠢᠨ᠎ᠠ ᠃ ᠡᠨᠡ ᠨᠢ ᠦᠨᠳᠦᠰᠦᠲᠡᠨ ᠦ ᠰᠤᠷᠭᠠᠯ ᠬᠦᠮᠦᠵᠢᠯ ᠢ ᠳᠡᠭᠡᠭᠰᠢᠯᠡᠭᠦᠯᠬᠦ ᠳᠦ ᠴᠢᠬᠤᠯᠠ ᠠᠴᠠ ᠤᠯᠤᠰ ᠲᠥᠷᠦ ᠶᠢᠨ ᠪᠣᠳᠯᠣᠭ᠎ᠠ ᠶᠢ ᠬᠡᠷᠡᠭᠵᠢᠭᠦᠯᠬᠦ ᠃ ᠮᠣᠩᠭᠣᠯ ᠦᠨᠳᠦᠰᠦᠲᠡᠨ ᠦ ᠦᠯᠡᠮᠵᠢ ᠰᠣᠶᠣᠯ ᠢ ᠬᠠᠮᠠᠭᠠᠯᠠᠨ ᠬᠥᠭᠵᠢᠭᠦᠯᠬᠦ ᠶᠢᠨ ᠲᠥᠯᠦᠭᠡ ᠶᠡᠬᠡ ᠠᠵᠢᠯ ᠢ ᠶᠠᠪᠤᠭᠤᠯᠵᠤ ᠪᠠᠶᠢᠨ᠎ᠠ ᠃ ᠡᠨᠡ ᠨᠢ ᠦᠨᠳᠦᠰᠦᠲᠡᠨ ᠦ ᠰᠤᠷᠭᠠᠯ ᠬᠦᠮᠦᠵᠢᠯ ᠢ ᠳᠡᠭᠡᠭᠰᠢᠯᠡᠭᠦᠯᠬᠦ ᠳᠦ ᠴᠢᠬᠤᠯᠠ ᠠᠴᠠ ᠤᠯᠤᠰ ᠲᠥᠷᠦ ᠶᠢᠨ ᠪᠣᠳᠯᠣᠭ᠎ᠠ ᠶᠢ ᠬᠡᠷᠡᠭᠵᠢᠭᠦᠯᠬᠦ ᠃ ᠮᠣᠩᠭᠣᠯ ᠦᠨᠳᠦᠰᠦᠲᠡᠨ ᠦ ᠦᠯᠡᠮᠵᠢ ᠰᠣᠶᠣᠯ ᠢ ᠬᠠᠮᠠᠭᠠᠯᠠᠨ ᠬᠥᠭᠵᠢᠭᠦᠯᠬᠦ ᠶᠢᠨ ᠲᠥᠯᠦᠭᠡ ᠶᠡᠬᠡ ᠠᠵᠢᠯ ᠢ ᠶᠠᠪᠤᠭᠤᠯᠵᠤ ᠪᠠᠶᠢᠨ᠎ᠠ ᠃ ᠡᠨᠡ ᠨᠢ ᠦᠨᠳᠦᠰᠦᠲᠡᠨ ᠦ ᠰᠤᠷᠭᠠᠯ ᠬᠦᠮᠦᠵᠢᠯ ᠢ ᠳᠡᠭᠡᠭᠰᠢᠯᠡᠭᠦᠯᠬᠦ ᠳᠦ ᠴᠢᠬᠤᠯᠠ ᠠᠴᠠ ᠤᠯᠤᠰ ᠲᠥᠷᠦ ᠶᠢᠨ ᠪᠣᠳᠯᠣᠭ᠎ᠠ ᠶᠢ ᠬᠡᠷᠡᠭᠵᠢᠭᠦᠯᠬᠦ ᠃ ᠮᠣᠩᠭᠣᠯ ᠦᠨᠳᠦᠰᠦᠲᠡᠨ ᠦ ᠦᠯᠡᠮᠵᠢ ᠰᠣᠶᠣᠯ ᠢ ᠬᠠᠮᠠᠭᠠᠯᠠᠨ ᠬᠥᠭᠵᠢᠭᠦᠯᠬᠦ ᠶᠢᠨ ᠲᠥᠯᠦᠭᠡ ᠶᠡᠬᠡ ᠠᠵᠢᠯ ᠢ ᠶᠠᠪᠤᠭᠤᠯᠵᠤ ᠪᠠᠶᠢᠨ᠎ᠠ ᠃ ᠡᠨᠡ ᠨᠢ ᠦᠨᠳᠦᠰᠦᠲᠡᠨ ᠦ ᠰᠤᠷᠭᠠᠯ ᠬᠦᠮᠦᠵᠢᠯ ᠢ ᠳᠡᠭᠡᠭᠰᠢᠯᠡᠭᠦᠯᠬᠦ ᠳᠦ ᠴᠢᠬᠤᠯᠠ ᠠᠴᠠ ᠤᠯᠤᠰ ᠲᠥᠷᠦ ᠶᠢᠨ ᠪᠣᠳᠯᠣᠭ᠎ᠠ ᠶᠢ ᠬᠡᠷᠡᠭᠵᠢᠭᠦᠯᠬᠦ ᠃ ᠮᠣᠩᠭᠣᠯ ᠦᠨᠳᠦᠰᠦᠲᠡᠨ ᠦ ᠦᠯᠡᠮᠵᠢ ᠰᠣᠶᠣᠯ ᠢ ᠬᠠᠮᠠᠭᠠᠯᠠᠨ ᠬᠥᠭᠵᠢᠭᠦᠯᠬᠦ ᠶᠢᠨ ᠲᠥᠯᠦᠭᠡ ᠶᠡᠬᠡ ᠠᠵᠢᠯ ᠢ ᠶᠠᠪᠤᠭᠤᠯᠵᠤ ᠪᠠᠶᠢᠨ᠎ᠠ ᠃ ᠡᠨᠡ ᠨᠢ ᠦᠨᠳᠦᠰᠦᠲᠡᠨ ᠦ ᠰᠤᠷᠭᠠᠯ ᠬᠦᠮᠦᠵᠢᠯ ᠢ ᠳᠡᠭᠡᠭᠰᠢᠯᠡᠭᠦᠯᠬᠦ ᠳᠦ ᠴᠢᠬᠤᠯᠠ ᠠᠴᠠ ᠤᠯᠤᠰ ᠲᠥᠷᠦ ᠶᠢᠨ ᠪᠣᠳᠯᠣᠭ᠎ᠠ ᠶᠢ ᠬᠡᠷᠡᠭᠵᠢᠭᠦᠯᠬᠦ ᠃ ᠮᠣᠩᠭᠣᠯ ᠦᠨᠳᠦᠰᠦᠲᠡᠨ ᠦ ᠦᠯᠡᠮᠵᠢ ᠰᠣᠶᠣᠯ ᠢ ᠬᠠᠮᠠᠭᠠᠯᠠᠨ ᠬᠥᠭᠵᠢᠭᠦᠯᠬᠦ ᠶᠢᠨ ᠲᠥᠯᠦᠭᠡ ᠶᠡᠬᠡ ᠠᠵᠢᠯ ᠢ ᠶᠠᠪᠤᠭᠤᠯᠵᠤ ᠪᠠᠶᠢᠨ᠎ᠠ ᠃ ᠡᠨᠡ ᠨᠢ ᠦᠨᠳᠦᠰᠦᠲᠡᠨ ᠦ ᠰᠤᠷᠭᠠᠯ ᠬᠦᠮᠦᠵᠢᠯ ᠢ ᠳᠡᠭᠡᠭᠰᠢᠯᠡᠭᠦᠯᠬᠦ ᠳᠦ ᠴᠢᠬᠤᠯᠠ ᠠᠴᠠ ᠤᠯᠤᠰ ᠲᠥᠷᠦ ᠶᠢᠨ ᠪᠣᠳᠯᠣᠭ᠎ᠠ ᠶᠢ ᠬᠡᠷᠡᠭᠵᠢᠭᠦᠯᠬᠦ ᠃ ᠮᠣᠩᠭᠣᠯ ᠦᠨᠳᠦᠰᠦᠲᠡᠨ ᠦ ᠦᠯᠡᠮᠵᠢ ᠰᠣᠶᠣᠯ ᠢ ᠬᠠᠮᠠᠭᠠᠯᠠᠨ ᠬᠥᠭᠵᠢᠭᠦᠯᠬᠦ ᠶᠢᠨ ᠲᠥᠯᠦᠭᠡ ᠶᠡᠬᠡ ᠠᠵᠢᠯ ᠢ ᠶᠠᠪᠤᠭᠤᠯᠵᠤ ᠪᠠᠶᠢᠨ᠎ᠠ ᠃ ᠡᠨᠡ ᠨᠢ ᠦᠨᠳᠦᠰᠦᠲᠡᠨ ᠦ ᠰᠤᠷᠭᠠᠯ ᠬᠦᠮᠦᠵᠢᠯ ᠢ ᠳᠡᠭᠡᠭᠰᠢᠯᠡᠭᠦᠯᠬᠦ ᠳᠦ ᠴᠢᠬᠤᠯᠠ ᠠᠴᠠ ᠤᠯᠤᠰ ᠲᠥᠷᠦ ᠶᠢᠨ ᠪᠣᠳᠯᠣᠭ᠎ᠠ ᠶᠢ ᠬᠡᠷᠡᠭᠵᠢᠭᠦᠯᠬᠦ ᠃ ᠮᠣᠩᠭᠣᠯ ᠦᠨᠳᠦᠰᠦᠲᠡᠨ ᠦ ᠦᠯᠡᠮᠵᠢ ᠰᠣᠶᠣᠯ ᠢ ᠬᠠᠮᠠᠭᠠᠯᠠᠨ ᠬᠥᠭᠵᠢᠭᠦᠯᠬᠦ ᠶᠢᠨ ᠲᠥᠯᠦᠭᠡ ᠶᠡᠬᠡ ᠠᠵᠢᠯ ᠢ ᠶᠠᠪᠤᠭᠤᠯᠵᠤ ᠪᠠᠶᠢᠨ᠎ᠠ ᠃ ᠡᠨᠡ ᠨᠢ ᠦᠨᠳᠦᠰᠦᠲᠡᠨ ᠦ ᠰᠤᠷᠭᠠᠯ ᠬᠦᠮᠦᠵᠢᠯ ᠢ ᠳᠡᠭᠡᠭᠰᠢᠯᠡᠭᠦᠯᠬᠦ ᠳᠦ ᠴᠢᠬᠤᠯᠠ ᠠᠴᠠ ᠤᠯᠤᠰ ᠲᠥᠷᠦ ᠶᠢᠨ ᠪᠣᠳᠯᠣᠭ᠎ᠠ ᠶᠢ ᠬᠡᠷᠡᠭᠵᠢᠭᠦᠯᠬᠦ ᠃ ᠮᠣᠩᠭᠣᠯ ᠦᠨᠳᠦᠰᠦᠲᠡᠨ ᠦ ᠦᠯᠡᠮᠵᠢ ᠰᠣᠶᠣᠯ ᠢ ᠬᠠᠮᠠᠭᠠᠯᠠᠨ ᠬᠥᠭᠵᠢᠭᠦᠯᠬᠦ ᠶᠢᠨ ᠲᠥᠯᠦᠭᠡ ᠶᠡᠬᠡ ᠠᠵᠢᠯ ᠢ ᠶᠠᠪᠤᠭᠤᠯᠵᠤ ᠪᠠᠶᠢᠨ᠎ᠠ ᠃ ᠡᠨᠡ ᠨᠢ ᠦᠨᠳᠦᠰᠦᠲᠡᠨ ᠦ ᠰᠤᠷᠭᠠᠯ ᠬᠦᠮᠦᠵᠢᠯ ᠢ ᠳᠡᠭᠡᠭᠰᠢᠯᠡᠭᠦᠯᠬᠦ ᠳᠦ ᠴᠢᠬᠤᠯᠠ ᠠᠴᠠ ᠤᠯᠤᠰ ᠲᠥᠷᠦ ᠶᠢᠨ ᠪᠣᠳᠯᠣᠭ᠎ᠠ ᠶᠢ ᠬᠡᠷᠡᠭᠵᠢᠭᠦᠯᠬᠦ ᠃ ᠮᠣᠩᠭᠣᠯ ᠦᠨᠳᠦᠰᠦᠲᠡᠨ ᠦ ᠦᠯᠡᠮᠵᠢ ᠰᠣᠶᠣᠯ ᠢ ᠬᠠᠮᠠᠭᠠᠯᠠᠨ ᠬᠥᠭᠵᠢᠭᠦᠯᠬᠦ ᠶᠢᠨ ᠲᠥᠯᠦᠭᠡ ᠶᠡᠬᠡ ᠠᠵᠢᠯ ᠢ ᠶᠠᠪᠤᠭᠤᠯᠵᠤ ᠪᠠᠶᠢᠨ᠎ᠠ ᠃ ᠡᠨᠡ ᠨᠢ ᠦᠨᠳᠦᠰᠦᠲᠡᠨ ᠦ ᠰᠤᠷᠭᠠᠯ ᠬᠦᠮᠦᠵᠢᠯ ᠢ ᠳᠡᠭᠡᠭᠰᠢᠯᠡᠭᠦᠯᠬᠦ ᠳᠦ ᠴᠢᠬᠤᠯᠠ ᠠᠴᠠ ᠤᠯᠤᠰ ᠲᠥᠷᠦ ᠶᠢᠨ ᠪᠣᠳᠯᠣᠭ᠎ᠠ ᠶᠢ ᠬᠡᠷᠡᠭᠵᠢᠭᠦᠯᠬᠦ ᠃ ᠮᠣᠩᠭᠣᠯ ᠦᠨᠳᠦᠰᠦᠲᠡᠨ ᠦ ᠦᠯᠡᠮᠵᠢ ᠰᠣᠶᠣᠯ ᠢ ᠬᠠᠮᠠᠭᠠᠯᠠᠨ ᠬᠥᠭᠵᠢᠭᠦᠯᠬᠦ ᠶᠢᠨ ᠲᠥᠯᠦᠭᠡ ᠶᠡᠬᠡ ᠠᠵᠢᠯ ᠢ ᠶᠠᠪᠤᠭᠤᠯᠵᠤ ᠪᠠᠶᠢᠨ᠎ᠠ ᠃ ᠡᠨᠡ ᠨᠢ ᠦᠨᠳᠦᠰᠦᠲᠡᠨ ᠦ ᠰᠤᠷᠭᠠᠯ ᠬᠦᠮᠦᠵᠢᠯ ᠢ ᠳᠡᠭᠡᠭᠰᠢᠯᠡᠭᠦᠯᠬᠦ ᠳᠦ ᠴᠢᠬᠤᠯᠠ ᠠᠴᠠ ᠤᠯᠤᠰ ᠲᠥᠷᠦ ᠶᠢᠨ ᠪᠣᠳᠯᠣᠭ᠎ᠠ ᠶᠢ ᠬᠡᠷᠡᠭᠵᠢᠭᠦᠯᠬᠦ ᠃ ᠮᠣᠩᠭᠣᠯ ᠦᠨᠳᠦᠰᠦᠲᠡᠨ ᠦ ᠦᠯᠡᠮᠵᠢ ᠰᠣᠶᠣᠯ ᠢ ᠬᠠᠮᠠᠭᠠᠯᠠᠨ ᠬᠥᠭᠵᠢᠭᠦᠯᠬᠦ ᠶᠢᠨ ᠲᠥᠯᠦᠭᠡ ᠶᠡᠬᠡ ᠠᠵᠢᠯ ᠢ ᠶᠠᠪᠤᠭᠤᠯᠵᠤ ᠪᠠᠶᠢᠨ᠎ᠠ ᠃ ᠡᠨᠡ ᠨᠢ ᠦᠨᠳᠦᠰᠦᠲᠡᠨ ᠦ ᠰᠤᠷᠭᠠᠯ ᠬᠦᠮᠦᠵᠢᠯ ᠢ ᠳᠡᠭᠡᠭᠰᠢᠯᠡᠭᠦᠯᠬᠦ ᠳᠦ ᠴᠢᠬᠤᠯᠠ ᠠᠴᠠ ᠤᠯᠤᠰ ᠲᠥᠷᠦ ᠶᠢᠨ ᠪᠣᠳᠯᠣᠭ᠎ᠠ ᠶᠢ ᠬᠡᠷᠡᠭᠵᠢᠭᠦᠯᠬᠦ ᠃ ᠮᠣᠩᠭᠣᠯ ᠦᠨᠳᠦᠰᠦᠲᠡᠨ ᠦ ᠦᠯᠡᠮᠵᠢ ᠰᠣᠶᠣᠯ ᠢ ᠬᠠᠮᠠᠭᠠᠯᠠᠨ ᠬᠥᠭᠵᠢᠭᠦᠯᠬᠦ ᠶᠢᠨ ᠲᠥᠯᠦᠭᠡ ᠶᠡᠬᠡ ᠠᠵᠢᠯ ᠢ ᠶᠠᠪᠤᠭᠤᠯᠵᠤ ᠪᠠᠶᠢᠨ᠎ᠠ ᠃ ᠡᠨᠡ ᠨᠢ ᠦᠨᠳᠦᠰᠦᠲᠡᠨ ᠦ ᠰᠤᠷᠭᠠᠯ ᠬᠦᠮᠦᠵᠢᠯ ᠢ ᠳᠡᠭᠡᠭᠰᠢᠯᠡᠭᠦᠯᠬᠦ ᠳᠦ ᠴᠢᠬᠤᠯᠠ ᠠᠴᠠ ᠤᠯᠤᠰ ᠲᠥᠷᠦ ᠶᠢᠨ ᠪᠣᠳᠯᠣᠭ᠎ᠠ ᠶᠢ ᠬᠡᠷᠡᠭᠵᠢᠭᠦᠯᠬᠦ ᠃ ᠮᠣᠩᠭᠣᠯ ᠦᠨᠳᠦᠰᠦᠲᠡᠨ ᠦ ᠦᠯᠡᠮᠵᠢ ᠰᠣᠶᠣᠯ ᠢ ᠬᠠᠮᠠᠭᠠᠯᠠᠨ ᠬᠥᠭᠵᠢᠭᠦᠯᠬᠦ ᠶᠢᠨ ᠲᠥᠯᠦᠭᠡ ᠶᠡᠬᠡ ᠠᠵᠢᠯ ᠢ ᠶᠠᠪᠤᠭᠤᠯᠵᠤ ᠪᠠᠶᠢᠨ᠎ᠠ ᠃ ᠡᠨᠡ ᠨᠢ ᠦᠨᠳᠦᠰᠦᠲᠡᠨ ᠦ ᠰᠤᠷᠭᠠᠯ ᠬᠦᠮᠦᠵᠢᠯ ᠢ ᠳᠡᠭᠡᠭᠰᠢᠯᠡᠭᠦᠯᠬᠦ ᠳᠦ ᠴᠢᠬᠤᠯᠠ ᠠᠴᠠ ᠤᠯᠤᠰ ᠲᠥᠷᠦ ᠶᠢᠨ ᠪᠣᠳᠯᠣᠭ᠎ᠠ ᠶᠢ ᠬᠡᠷᠡᠭᠵᠢᠭᠦᠯᠬᠦ ᠃ ᠮᠣᠩᠭᠣᠯ ᠦᠨᠳᠦᠰᠦᠲᠡᠨ ᠦ ᠦᠯᠡᠮᠵᠢ ᠰᠣᠶᠣᠯ ᠢ ᠬᠠᠮᠠᠭᠠᠯᠠᠨ ᠬᠥᠭᠵᠢᠭᠦᠯᠬᠦ ᠶᠢᠨ ᠲᠥᠯᠦᠭᠡ ᠶᠡᠬᠡ ᠠᠵᠢᠯ ᠢ ᠶᠠᠪᠤᠭᠤᠯᠵᠤ ᠪᠠᠶᠢᠨ᠎ᠠ ᠃ ᠡᠨᠡ ᠨᠢ ᠦᠨᠳᠦᠰᠦᠲᠡᠨ ᠦ ᠰᠤᠷᠭᠠᠯ ᠬᠦᠮᠦᠵᠢᠯ ᠢ ᠳᠡᠭᠡᠭᠰᠢᠯᠡᠭᠦᠯᠬᠦ ᠳᠦ ᠴᠢᠬᠤᠯᠠ ᠠᠴᠠ ᠤᠯᠤᠰ ᠲᠥᠷᠦ ᠶᠢᠨ ᠪᠣᠳᠯᠣᠭ᠎ᠠ ᠶᠢ ᠬᠡᠷᠡᠭᠵᠢᠭᠦᠯᠬᠦ ᠃ ᠮᠣᠩᠭᠣᠯ ᠦᠨᠳᠦᠰᠦᠲᠡᠨ ᠦ ᠦᠯᠡᠮᠵᠢ ᠰᠣᠶᠣᠯ ᠢ ᠬᠠᠮᠠᠭᠠᠯᠠᠨ ᠬᠥᠭᠵᠢᠭᠦᠯᠬᠦ ᠶᠢᠨ ᠲᠥᠯᠦᠭᠡ ᠶᠡᠬᠡ ᠠᠵᠢᠯ ᠢ ᠶᠠᠪᠤᠭᠤᠯᠵᠤ ᠪᠠᠶᠢᠨ᠎ᠠ ᠃ ᠡᠨᠡ ᠨᠢ ᠦᠨᠳᠦᠰᠦᠲᠡᠨ ᠦ ᠰᠤᠷᠭᠠᠯ ᠬᠦᠮᠦᠵᠢᠯ ᠢ ᠳᠡᠭᠡᠭᠰᠢᠯᠡᠭᠦᠯᠬᠦ ᠳᠦ ᠴᠢᠬᠤᠯᠠ ᠠᠴᠠ ᠤᠯᠤᠰ ᠲᠥᠷᠦ ᠶᠢᠨ ᠪᠣᠳᠯᠣᠭ᠎ᠠ ᠶᠢ ᠬᠡᠷᠡᠭᠵᠢᠭᠦᠯᠬᠦ ᠃ ᠮᠣᠩᠭᠣᠯ ᠦᠨᠳᠦᠰᠦᠲᠡᠨ ᠦ ᠦᠯᠡᠮᠵᠢ ᠰᠣᠶᠣᠯ ᠢ ᠬᠠᠮᠠᠭᠠᠯᠠᠨ ᠬᠥᠭᠵᠢᠭᠦᠯᠬᠦ ᠶᠢᠨ ᠲᠥᠯᠦᠭᠡ ᠶᠡᠬᠡ ᠠᠵᠢᠯ ᠢ ᠶᠠᠪᠤᠭᠤᠯᠵᠤ ᠪᠠᠶᠢᠨ᠎ᠠ ᠃ ᠡᠨᠡ ᠨᠢ ᠦᠨᠳᠦᠰᠦᠲᠡᠨ ᠦ ᠰᠤᠷᠭᠠᠯ ᠬᠦᠮᠦᠵᠢᠯ ᠢ ᠳᠡᠭᠡᠭᠰᠢᠯᠡᠭᠦᠯᠬᠦ ᠳᠦ ᠴᠢᠬᠤᠯᠠ ᠠᠴᠠ ᠤᠯᠤᠰ ᠲᠥᠷᠦ ᠶᠢᠨ ᠪᠣᠳᠯᠣᠭ᠎ᠠ ᠶᠢ ᠬᠡᠷᠡᠭᠵᠢᠭᠦᠯᠬᠦ ᠃ ᠮᠣᠩᠭᠣᠯ ᠦᠨᠳᠦᠰᠦᠲᠡᠨ ᠦ ᠦᠯᠡᠮᠵᠢ ᠰᠣᠶᠣᠯ ᠢ ᠬᠠᠮᠠᠭᠠᠯᠠᠨ ᠬᠥᠭᠵᠢᠭᠦᠯᠬᠦ ᠶᠢᠨ ᠲᠥᠯᠦᠭᠡ ᠶᠡᠬᠡ ᠠᠵᠢᠯ ᠢ ᠶᠠᠪᠤᠭᠤᠯᠵᠤ ᠪᠠᠶᠢᠨ᠎ᠠ ᠃ ᠡᠨᠡ ᠨᠢ ᠦᠨᠳᠦᠰᠦᠲᠡᠨ ᠦ ᠰᠤᠷᠭᠠᠯ ᠬᠦᠮᠦᠵᠢᠯ ᠢ ᠳᠡᠭᠡᠭᠰᠢᠯᠡᠭᠦᠯᠬᠦ ᠳᠦ ᠴᠢᠬᠤᠯᠠ ᠠᠴᠠ ᠤᠯᠤᠰ ᠲᠥᠷᠦ ᠶᠢᠨ ᠪᠣᠳᠯᠣᠭ᠎ᠠ ᠶᠢ ᠬᠡᠷᠡᠭᠵᠢᠭᠦᠯᠬᠦ ᠃ ᠮᠣᠩᠭᠣᠯ ᠦᠨᠳᠦᠰᠦᠲᠡᠨ ᠦ ᠦᠯᠡᠮᠵᠢ ᠰᠣᠶᠣᠯ ᠢ ᠬᠠᠮᠠᠭᠠᠯᠠᠨ ᠬᠥᠭᠵᠢᠭᠦᠯᠬᠦ ᠶᠢᠨ ᠲᠥᠯᠦᠭᠡ ᠶᠡᠬᠡ ᠠᠵᠢᠯ ᠢ ᠶᠠᠪᠤᠭᠤᠯᠵᠤ ᠪᠠᠶᠢᠨ᠎ᠠ ᠃ ᠡᠨᠡ ᠨᠢ ᠦᠨᠳᠦᠰᠦᠲᠡᠨ ᠦ ᠰᠤᠷᠭᠠᠯ ᠬᠦᠮᠦᠵᠢᠯ ᠢ ᠳᠡᠭᠡᠭᠰᠢᠯᠡᠭᠦᠯᠬᠦ ᠳᠦ ᠴᠢᠬᠤᠯᠠ ᠠᠴᠠ ᠤᠯᠤᠰ ᠲᠥᠷᠦ ᠶᠢᠨ ᠪᠣᠳᠯᠣᠭ᠎ᠠ ᠶᠢ ᠬᠡᠷᠡᠭᠵᠢᠭᠦᠯᠬᠦ ᠃ ᠮᠣᠩᠭᠣᠯ ᠦᠨᠳᠦᠰᠦᠲᠡᠨ ᠦ ᠦᠯᠡᠮᠵᠢ ᠰᠣᠶᠣᠯ ᠢ ᠬᠠᠮᠠᠭᠠᠯᠠᠨ ᠬᠥᠭᠵᠢᠭᠦᠯᠬᠦ ᠶᠢᠨ ᠲᠥᠯᠦᠭᠡ ᠶᠡᠬᠡ ᠠᠵᠢᠯ ᠢ ᠶᠠᠪᠤᠭᠤᠯᠵᠤ ᠪᠠᠶᠢᠨ᠎ᠠ ᠃ ᠡᠨᠡ ᠨᠢ ᠦᠨᠳᠦᠰᠦᠲᠡᠨ ᠦ ᠰᠤᠷᠭᠠᠯ ᠬᠦᠮᠦᠵᠢᠯ ᠢ ᠳᠡᠭᠡᠭᠰᠢᠯᠡᠭᠦᠯᠬᠦ ᠳᠦ ᠴᠢᠬᠤᠯᠠ ᠠᠴᠠ ᠤᠯᠤᠰ ᠲᠥᠷᠦ ᠶᠢᠨ ᠪᠣᠳᠯᠣᠭ᠎ᠠ ᠶᠢ ᠬᠡᠷᠡᠭᠵᠢᠭᠦᠯᠬᠦ ᠃ ᠮᠣᠩᠭᠣᠯ ᠦᠨᠳᠦᠰᠦᠲᠡᠨ ᠦ ᠦᠯᠡᠮᠵᠢ ᠰᠣᠶᠣᠯ ᠢ ᠬᠠᠮᠠᠭᠠᠯᠠᠨ ᠬᠥᠭᠵᠢᠭᠦᠯᠬᠦ ᠶᠢᠨ ᠲᠥᠯᠦᠭᠡ ᠶᠡᠬᠡ ᠠᠵᠢᠯ ᠢ ᠶᠠᠪᠤᠭᠤᠯᠵᠤ ᠪᠠᠶᠢᠨ᠎ᠠ ᠃ ᠡᠨᠡ ᠨᠢ ᠦᠨᠳᠦᠰᠦᠲᠡᠨ ᠦ ᠰᠤᠷᠭᠠᠯ ᠬᠦᠮᠦᠵᠢᠯ ᠢ ᠳᠡᠭᠡᠭᠰᠢᠯᠡᠭᠦᠯᠬᠦ ᠳᠦ ᠴᠢᠬᠤᠯᠠ ᠠᠴᠠ ᠤᠯᠤᠰ ᠲᠥᠷᠦ ᠶᠢᠨ ᠪᠣᠳᠯᠣᠭ᠎ᠠ ᠶᠢ ᠬᠡᠷᠡᠭᠵᠢᠭᠦᠯᠬᠦ ᠃ ᠮᠣᠩᠭᠣᠯ ᠦᠨᠳᠦᠰᠦᠲᠡᠨ ᠦ ᠦᠯᠡᠮᠵᠢ ᠰᠣᠶᠣᠯ ᠢ ᠬᠠᠮᠠᠭᠠᠯᠠᠨ ᠬᠥᠭᠵᠢᠭᠦᠯᠬᠦ ᠶᠢᠨ ᠲᠥᠯᠦᠭᠡ ᠶᠡᠬᠡ ᠠᠵᠢᠯ ᠢ ᠶᠠᠪᠤᠭᠤᠯᠵᠤ ᠪᠠᠶᠢᠨ᠎ᠠ ᠃ ᠡᠨᠡ ᠨᠢ ᠦᠨᠳᠦᠰᠦᠲᠡᠨ ᠦ ᠰᠤᠷᠭᠠᠯ ᠬᠦᠮᠦᠵᠢᠯ ᠢ ᠳᠡᠭᠡᠭᠰᠢᠯᠡᠭᠦᠯᠬᠦ ᠳᠦ ᠴᠢᠬᠤᠯᠠ ᠠᠴᠠ ᠤᠯᠤᠰ ᠲᠥᠷᠦ ᠶᠢᠨ ᠪᠣᠳᠯᠣᠭ᠎ᠠ ᠶᠢ ᠬᠡᠷᠡᠭᠵᠢᠭᠦᠯᠬᠦ ᠃ ᠮᠣᠩᠭᠣᠯ ᠦᠨᠳᠦᠰᠦᠲᠡᠨ ᠦ ᠦᠯᠡᠮᠵᠢ ᠰᠣᠶᠣᠯ ᠢ ᠬᠠᠮᠠᠭᠠᠯᠠᠨ ᠬᠥᠭᠵᠢᠭᠦᠯᠬᠦ ᠶᠢᠨ ᠲᠥᠯᠦᠭᠡ ᠶᠡᠬᠡ ᠠᠵᠢᠯ ᠢ ᠶᠠᠪᠤᠭᠤᠯᠵᠤ ᠪᠠᠶᠢᠨ᠎ᠠ ᠃ ᠡᠨᠡ ᠨᠢ ᠦᠨᠳᠦᠰᠦᠲᠡᠨ ᠦ ᠰᠤᠷᠭᠠᠯ ᠬᠦᠮᠦᠵᠢᠯ ᠢ ᠳᠡᠭᠡᠭᠰᠢᠯᠡᠭᠦᠯᠬᠦ ᠳᠦ ᠴᠢᠬᠤᠯᠠ ᠠᠴᠠ ᠤᠯᠤᠰ ᠲᠥᠷᠦ ᠶᠢᠨ ᠪᠣᠳᠯᠣᠭ᠎ᠠ ᠶᠢ ᠬᠡᠷᠡᠭᠵᠢᠭᠦᠯᠬᠦ ᠃ ᠮᠣᠩᠭᠣᠯ ᠦᠨᠳᠦᠰᠦᠲᠡᠨ ᠦ ᠦᠯᠡᠮᠵᠢ ᠰᠣᠶᠣᠯ ᠢ ᠬᠠᠮᠠᠭᠠᠯᠠᠨ ᠬᠥᠭᠵᠢᠭᠦᠯᠬᠦ ᠶᠢᠨ ᠲᠥᠯᠦᠭᠡ ᠶᠡᠬᠡ ᠠᠵᠢᠯ ᠢ ᠶᠠᠪᠤᠭᠤᠯᠵᠤ ᠪᠠᠶᠢᠨ᠎ᠠ ᠃ ᠡᠨᠡ ᠨᠢ ᠦᠨᠳᠦᠰᠦᠲᠡᠨ ᠦ ᠰᠤᠷᠭᠠᠯ ᠬᠦᠮᠦᠵᠢᠯ ᠢ ᠳᠡᠭᠡᠭᠰᠢᠯᠡᠭᠦᠯᠬᠦ ᠳᠦ ᠴᠢᠬᠤᠯᠠ ᠠᠴᠠ ᠤᠯᠤᠰ ᠲᠥᠷᠦ ᠶᠢᠨ ᠪᠣᠳᠯᠣᠭ᠎ᠠ ᠶᠢ ᠬᠡᠷᠡᠭᠵᠢᠭᠦᠯᠬᠦ ᠃ ᠮᠣᠩᠭᠣᠯ ᠦᠨᠳᠦᠰᠦᠲᠡᠨ ᠦ ᠦᠯᠡᠮᠵᠢ ᠰᠣᠶᠣᠯ ᠢ ᠬᠠᠮᠠᠭᠠᠯᠠᠨ ᠬᠥᠭᠵᠢᠭᠦᠯᠬᠦ ᠶᠢᠨ ᠲᠥᠯᠦᠭᠡ ᠶᠡᠬᠡ ᠠᠵᠢᠯ ᠢ ᠶᠠᠪᠤᠭᠤᠯᠵᠤ ᠪᠠᠶᠢᠨ᠎ᠠ ᠃ ᠡᠨᠡ ᠨᠢ ᠦᠨᠳᠦᠰᠦᠲᠡᠨ ᠦ ᠰᠤᠷᠭᠠᠯ ᠬᠦᠮᠦᠵᠢᠯ ᠢ ᠳᠡᠭᠡᠭᠰᠢᠯᠡᠭᠦᠯᠬᠦ ᠳᠦ ᠴᠢᠬᠤᠯᠠ ᠠᠴᠠ ᠤᠯᠤᠰ ᠲᠥᠷᠦ ᠶᠢᠨ ᠪᠣᠳᠯᠣᠭ᠎ᠠ ᠶᠢ ᠬᠡᠷᠡᠭᠵᠢᠭᠦᠯᠬᠦ ᠃ ᠮᠣᠩᠭᠣᠯ ᠦᠨᠳᠦᠰᠦᠲᠡᠨ ᠦ ᠦᠯᠡᠮᠵᠢ ᠰᠣᠶᠣᠯ ᠢ ᠬᠠᠮᠠᠭᠠᠯᠠᠨ ᠬᠥᠭᠵᠢᠭᠦᠯᠬᠦ ᠶᠢᠨ ᠲᠥᠯᠦᠭᠡ ᠶᠡᠬᠡ ᠠᠵᠢᠯ ᠢ ᠶᠠᠪᠤᠭᠤᠯᠵᠤ ᠪᠠᠶᠢᠨ᠎ᠠ ᠃ ᠡᠨᠡ ᠨᠢ ᠦᠨᠳᠦᠰᠦᠲᠡᠨ ᠦ ᠰᠤᠷᠭᠠᠯ ᠬᠦᠮᠦᠵᠢᠯ ᠢ ᠳᠡᠭᠡᠭᠰᠢᠯᠡᠭᠦᠯᠬᠦ ᠳᠦ ᠴᠢᠬᠤᠯᠠ ᠠᠴᠠ ᠤᠯᠤᠰ ᠲᠥᠷᠦ ᠶᠢᠨ ᠪᠣᠳᠯᠣᠭ᠎ᠠ ᠶᠢ ᠬᠡᠷᠡᠭᠵᠢᠭᠦᠯᠬᠦ ᠃ ᠮᠣᠩᠭᠣᠯ ᠦᠨᠳᠦᠰᠦᠲᠡᠨ ᠦ ᠦᠯᠡᠮᠵᠢ ᠰᠣᠶᠣᠯ ᠢ ᠬᠠᠮᠠᠭᠠᠯᠠᠨ ᠬᠥᠭᠵᠢᠭᠦᠯᠬᠦ ᠶᠢᠨ ᠲᠥᠯᠦᠭᠡ ᠶᠡᠬᠡ ᠠᠵᠢᠯ ᠢ ᠶᠠᠪᠤᠭᠤᠯᠵᠤ ᠪᠠᠶᠢᠨ᠎ᠠ ᠃ ᠡᠨᠡ ᠨᠢ ᠦᠨᠳᠦᠰᠦᠲᠡᠨ ᠦ ᠰᠤᠷᠭᠠᠯ ᠬᠦᠮᠦᠵᠢᠯ ᠢ ᠳᠡᠭᠡᠭᠰᠢᠯᠡᠭᠦᠯᠬᠦ ᠳᠦ ᠴᠢᠬᠤᠯᠠ ᠠᠴᠠ ᠤᠯᠤᠰ ᠲᠥᠷᠦ ᠶᠢᠨ ᠪᠣᠳᠯᠣᠭ᠎ᠠ ᠶᠢ ᠬᠡᠷᠡᠭᠵᠢᠭᠦᠯᠬᠦ ᠃ ᠮᠣᠩᠭᠣᠯ ᠦᠨᠳᠦᠰᠦᠲᠡᠨ ᠦ ᠦᠯᠡᠮᠵᠢ ᠰᠣᠶᠣᠯ ᠢ ᠬᠠᠮᠠᠭᠠᠯᠠᠨ ᠬᠥᠭᠵᠢᠭᠦᠯᠬᠦ ᠶᠢᠨ ᠲᠥᠯᠦᠭᠡ ᠶᠡᠬᠡ ᠠᠵᠢᠯ ᠢ ᠶᠠᠪᠤᠭᠤᠯᠵᠤ ᠪᠠᠶᠢᠨ᠎ᠠ ᠃ ᠡᠨᠡ ᠨᠢ ᠦᠨᠳᠦᠰᠦᠲᠡᠨ ᠦ ᠰᠤᠷᠭᠠᠯ ᠬᠦᠮᠦᠵᠢᠯ ᠢ ᠳᠡᠭᠡᠭᠰᠢᠯᠡᠭᠦᠯᠬᠦ ᠳᠦ ᠴᠢᠬᠤᠯᠠ ᠠᠴᠠ ᠤᠯᠤᠰ ᠲᠥᠷᠦ ᠶᠢᠨ ᠪᠣᠳᠯᠣᠭ᠎ᠠ ᠶᠢ ᠬᠡᠷᠡᠭᠵᠢᠭᠦᠯᠬᠦ ᠃ ᠮᠣᠩᠭᠣᠯ ᠦᠨᠳᠦᠰᠦᠲᠡᠨ ᠦ ᠦᠯᠡᠮᠵᠢ ᠰᠣᠶᠣᠯ ᠢ ᠬᠠᠮᠠᠭᠠᠯᠠᠨ ᠬᠥᠭᠵᠢᠭᠦᠯᠬᠦ ᠶᠢᠨ ᠲᠥᠯᠦᠭᠡ ᠶᠡᠬᠡ ᠠᠵᠢᠯ ᠢ ᠶᠠᠪᠤᠭᠤᠯᠵᠤ ᠪᠠᠶᠢᠨ᠎ᠠ ᠃ ᠡᠨᠡ ᠨᠢ ᠦᠨᠳᠦᠰᠦᠲᠡᠨ ᠦ ᠰᠤᠷᠭᠠᠯ ᠬᠦᠮᠦᠵᠢᠯ ᠢ ᠳᠡᠭᠡᠭᠰᠢᠯᠡᠭᠦᠯᠬᠦ ᠳᠦ ᠴᠢᠬᠤᠯᠠ ᠠᠴᠠ ᠤᠯᠤᠰ ᠲᠥᠷᠦ ᠶᠢᠨ ᠪᠣᠳᠯᠣᠭ᠎ᠠ ᠶᠢ ᠬᠡᠷᠡᠭᠵᠢᠭᠦᠯᠬᠦ ᠃ ᠮᠣᠩᠭᠣᠯ ᠦᠨᠳᠦᠰᠦᠲᠡᠨ ᠦ ᠦᠯᠡᠮᠵᠢ ᠰᠣᠶᠣᠯ ᠢ ᠬᠠᠮᠠᠭᠠᠯᠠᠨ ᠬᠥᠭᠵᠢᠭᠦᠯᠬᠦ ᠶᠢᠨ ᠲᠥᠯᠦᠭᠡ ᠶᠡᠬᠡ ᠠᠵᠢᠯ ᠢ ᠶᠠᠪᠤᠭᠤᠯᠵᠤ ᠪᠠᠶᠢᠨ᠎ᠠ ᠃ ᠡᠨᠡ ᠨᠢ ᠦᠨᠳᠦᠰᠦᠲᠡᠨ ᠦ ᠰᠤᠷᠭᠠᠯ ᠬᠦᠮᠦᠵᠢᠯ ᠢ ᠳᠡᠭᠡᠭᠰᠢᠯᠡᠭᠦᠯᠬᠦ ᠳᠦ ᠴᠢᠬᠤᠯᠠ ᠠᠴᠠ ᠤᠯᠤᠰ ᠲᠥᠷᠦ ᠶᠢᠨ ᠪᠣᠳᠯᠣᠭ᠎ᠠ ᠶᠢ ᠬᠡᠷᠡᠭᠵᠢᠭᠦᠯᠬᠦ ᠃ ᠮᠣᠩᠭᠣᠯ ᠦᠨᠳᠦᠰᠦᠲᠡᠨ ᠦ ᠦᠯᠡᠮᠵᠢ ᠰᠣᠶᠣᠯ ᠢ ᠬᠠᠮᠠᠭᠠᠯᠠᠨ ᠬᠥᠭᠵᠢᠭᠦᠯᠬᠦ ᠶᠢᠨ ᠲᠥᠯᠦᠭᠡ ᠶᠡᠬᠡ ᠠᠵᠢᠯ ᠢ ᠶᠠᠪᠤᠭᠤᠯᠵᠤ ᠪᠠᠶᠢᠨ᠎ᠠ ᠃ ᠡᠨᠡ ᠨᠢ ᠦᠨᠳᠦᠰᠦᠲᠡᠨ ᠦ ᠰᠤᠷᠭᠠᠯ ᠬᠦᠮᠦᠵᠢᠯ ᠢ ᠳᠡᠭᠡᠭᠰᠢᠯᠡᠭᠦᠯᠬᠦ ᠳᠦ ᠴᠢᠬᠤᠯᠠ ᠠᠴᠠ ᠤᠯᠤᠰ ᠲᠥᠷᠦ ᠶᠢᠨ ᠪᠣᠳᠯᠣᠭ᠎ᠠ ᠶᠢ ᠬᠡᠷᠡᠭᠵᠢᠭᠦᠯᠬᠦ ᠃ ᠮᠣᠩᠭᠣᠯ ᠦᠨᠳᠦᠰᠦᠲᠡᠨ ᠦ ᠦᠯᠡᠮᠵᠢ ᠰᠣᠶᠣᠯ ᠢ ᠬᠠᠮᠠᠭᠠᠯᠠᠨ ᠬᠥᠭᠵᠢᠭᠦᠯᠬᠦ ᠶᠢᠨ ᠲᠥᠯᠦᠭᠡ ᠶᠡᠬᠡ ᠠᠵᠢᠯ ᠢ ᠶᠠᠪᠤᠭᠤᠯᠵᠤ ᠪᠠᠶᠢᠨ᠎ᠠ ᠃ ᠡᠨᠡ ᠨᠢ ᠦᠨᠳᠦᠰᠦᠲᠡᠨ ᠦ ᠰᠤᠷᠭᠠᠯ ᠬᠦᠮᠦᠵᠢᠯ ᠢ ᠳᠡᠭᠡᠭᠰᠢᠯᠡᠭᠦᠯᠬᠦ ᠳᠦ ᠴᠢᠬᠤᠯᠠ ᠠᠴᠠ ᠤᠯᠤᠰ ᠲᠥᠷᠦ ᠶᠢᠨ ᠪᠣᠳᠯᠣᠭ᠎ᠠ ᠶᠢ ᠬᠡᠷᠡᠭᠵᠢᠭᠦᠯᠬᠦ ᠃ ᠮᠣᠩᠭᠣᠯ ᠦᠨᠳᠦᠰᠦᠲᠡᠨ ᠦ ᠦᠯᠡᠮᠵᠢ ᠰᠣᠶᠣᠯ ᠢ ᠬᠠᠮᠠᠭᠠᠯᠠᠨ ᠬᠥᠭᠵᠢᠭᠦᠯᠬᠦ ᠶᠢᠨ ᠲᠥᠯᠦᠭᠡ ᠶᠡᠬᠡ ᠠᠵᠢᠯ ᠢ ᠶᠠᠪᠤᠭᠤᠯᠵᠤ ᠪᠠᠶᠢᠨ᠎ᠠ ᠃ ᠡᠨᠡ ᠨᠢ ᠦᠨᠳᠦᠰᠦᠲᠡᠨ ᠦ ᠰᠤᠷᠭᠠᠯ ᠬᠦᠮᠦᠵᠢᠯ ᠢ ᠳᠡᠭᠡᠭᠰᠢᠯᠡᠭᠦᠯᠬᠦ ᠳᠦ ᠴᠢᠬᠤᠯᠠ ᠠᠴᠠ ᠤᠯᠤᠰ ᠲᠥᠷᠦ ᠶᠢᠨ ᠪᠣᠳᠯᠣᠭ᠎ᠠ ᠶᠢ ᠬᠡᠷᠡᠭᠵᠢᠭᠦᠯᠬᠦ ᠃ ᠮᠣᠩᠭᠣᠯ ᠦᠨᠳᠦᠰᠦᠲᠡᠨ ᠦ ᠦᠯᠡᠮᠵᠢ ᠰᠣᠶᠣᠯ ᠢ ᠬᠠᠮᠠᠭᠠᠯᠠᠨ ᠬᠥᠭᠵᠢᠭᠦᠯᠬᠦ ᠶᠢᠨ ᠲᠥᠯᠦᠭᠡ ᠶᠡᠬᠡ ᠠᠵᠢᠯ ᠢ ᠶᠠᠪᠤᠭᠤᠯᠵᠤ ᠪᠠᠶᠢᠨ᠎ᠠ ᠃ ᠡᠨᠡ ᠨᠢ ᠦᠨᠳᠦᠰᠦᠲᠡᠨ ᠦ ᠰᠤᠷᠭᠠᠯ ᠬᠦᠮᠦᠵᠢᠯ ᠢ ᠳᠡᠭᠡᠭᠰᠢᠯᠡᠭᠦᠯᠬᠦ ᠳᠦ ᠴᠢᠬᠤᠯᠠ ᠠᠴᠠ ᠤᠯᠤᠰ ᠲᠥᠷᠦ ᠶᠢᠨ ᠪᠣᠳᠯᠣᠭ᠎ᠠ ᠶᠢ ᠬᠡᠷᠡᠭᠵᠢᠭᠦᠯᠬᠦ ᠃ ᠮᠣᠩᠭᠣᠯ ᠦᠨᠳᠦᠰᠦᠲᠡᠨ ᠦ ᠦᠯᠡᠮᠵᠢ ᠰᠣᠶᠣᠯ ᠢ ᠬᠠᠮᠠᠭᠠᠯᠠᠨ ᠬᠥᠭᠵᠢᠭᠦᠯᠬᠦ ᠶᠢᠨ ᠲᠥᠯᠦᠭᠡ ᠶᠡᠬᠡ ᠠᠵᠢᠯ ᠢ ᠶᠠᠪᠤᠭᠤᠯᠵᠤ ᠪᠠᠶᠢᠨ᠎ᠠ ᠃ ᠡᠨᠡ ᠨᠢ ᠦᠨᠳᠦᠰᠦᠲᠡᠨ ᠦ ᠰᠤᠷᠭᠠᠯ ᠬᠦᠮᠦᠵᠢᠯ ᠢ ᠳᠡᠭᠡᠭᠰᠢᠯᠡᠭᠦᠯᠬᠦ ᠳᠦ ᠴᠢᠬᠤᠯᠠ ᠠᠴᠠ ᠤᠯᠤᠰ ᠲᠥᠷᠦ ᠶᠢᠨ ᠪᠣᠳᠯᠣᠭ᠎ᠠ ᠶᠢ ᠬᠡᠷᠡᠭᠵᠢᠭᠦᠯᠬᠦ ᠃ ᠮᠣᠩᠭᠣᠯ ᠦᠨᠳᠦᠰᠦᠲᠡᠨ ᠦ ᠦᠯᠡᠮᠵᠢ ᠰᠣᠶᠣᠯ ᠢ ᠬᠠᠮᠠᠭᠠᠯᠠᠨ ᠬᠥᠭᠵᠢᠭᠦᠯᠬᠦ ᠶᠢᠨ ᠲᠥᠯᠦᠭᠡ ᠶᠡᠬᠡ ᠠᠵᠢᠯ ᠢ ᠶᠠᠪᠤᠭᠤᠯᠵᠤ ᠪᠠᠶᠢᠨ᠎ᠠ ᠃ ᠡᠨᠡ ᠨᠢ ᠦᠨᠳᠦᠰᠦᠲᠡᠨ ᠦ ᠰᠤᠷᠭᠠᠯ ᠬᠦᠮᠦᠵᠢᠯ ᠢ ᠳᠡᠭᠡᠭᠰᠢᠯᠡᠭᠦᠯᠬᠦ ᠳᠦ ᠴᠢᠬᠤᠯᠠ ᠠᠴᠠ ᠤᠯᠤᠰ ᠲᠥᠷᠦ ᠶᠢᠨ ᠪᠣᠳᠯᠣᠭ᠎ᠠ ᠶᠢ ᠬᠡᠷᠡᠭᠵᠢᠭᠦᠯᠬᠦ ᠃ ᠮᠣᠩᠭᠣᠯ ᠦᠨᠳᠦᠰᠦᠲᠡᠨ ᠦ ᠦᠯᠡᠮᠵᠢ ᠰᠣᠶᠣᠯ ᠢ ᠬᠠᠮᠠᠭᠠᠯᠠᠨ ᠬᠥᠭᠵᠢᠭᠦᠯᠬᠦ ᠶᠢᠨ ᠲᠥᠯᠦᠭᠡ ᠶᠡᠬᠡ ᠠᠵᠢᠯ ᠢ ᠶᠠᠪᠤᠭᠤᠯᠵᠤ ᠪᠠᠶᠢᠨ᠎ᠠ ᠃ ᠡᠨᠡ ᠨᠢ ᠦᠨᠳᠦᠰᠦᠲᠡᠨ ᠦ ᠰᠤᠷᠭᠠᠯ ᠬᠦᠮᠦᠵᠢᠯ ᠢ ᠳᠡᠭᠡᠭᠰᠢᠯᠡᠭᠦᠯᠬᠦ ᠳᠦ ᠴᠢᠬᠤᠯᠠ ᠠᠴᠠ ᠤᠯᠤᠰ ᠲᠥᠷᠦ ᠶᠢᠨ ᠪᠣᠳᠯᠣᠭ᠎ᠠ ᠶᠢ ᠬᠡᠷᠡᠭᠵᠢᠭᠦᠯᠬᠦ ᠃ ᠮᠣᠩᠭᠣᠯ ᠦᠨᠳᠦᠰᠦᠲᠡᠨ ᠦ ᠦᠯᠡᠮᠵᠢ ᠰᠣᠶᠣᠯ ᠢ ᠬᠠᠮᠠᠭᠠᠯᠠᠨ ᠬᠥᠭᠵᠢᠭᠦᠯᠬᠦ ᠶᠢᠨ ᠲᠥᠯᠦᠭᠡ ᠶᠡᠬᠡ ᠠᠵᠢᠯ ᠢ ᠶᠠᠪᠤᠭᠤᠯᠵᠤ ᠪᠠᠶᠢᠨ᠎ᠠ ᠃ ᠡᠨᠡ ᠨᠢ ᠦᠨᠳᠦᠰᠦᠲᠡᠨ ᠦ ᠰᠤᠷᠭᠠᠯ ᠬᠦᠮᠦᠵᠢᠯ ᠢ ᠳᠡᠭᠡᠭᠰᠢᠯᠡᠭᠦᠯᠬᠦ ᠳᠦ ᠴᠢᠬᠤᠯᠠ ᠠᠴᠠ ᠤᠯᠤᠰ ᠲᠥᠷᠦ ᠶᠢᠨ ᠪᠣᠳᠯᠣᠭ᠎ᠠ ᠶᠢ ᠬᠡᠷᠡᠭᠵᠢᠭᠦᠯᠬᠦ ᠃ ᠮᠣᠩᠭᠣᠯ ᠦᠨᠳᠦᠰᠦᠲᠡᠨ ᠦ ᠦᠯᠡᠮᠵᠢ ᠰᠣᠶᠣᠯ ᠢ ᠬᠠᠮᠠᠭᠠᠯᠠᠨ ᠬᠥᠭᠵᠢᠭᠦᠯᠬᠦ ᠶᠢᠨ ᠲᠥᠯᠦᠭᠡ ᠶᠡᠬᠡ ᠠᠵᠢᠯ ᠢ ᠶᠠᠪᠤᠭᠤᠯᠵᠤ ᠪᠠᠶᠢᠨ᠎ᠠ ᠃ ᠡᠨᠡ ᠨᠢ ᠦᠨᠳᠦᠰᠦᠲᠡᠨ ᠦ ᠰᠤᠷᠭᠠᠯ ᠬᠦᠮᠦᠵᠢᠯ ᠢ ᠳᠡᠭᠡᠭᠰᠢᠯᠡᠭᠦᠯᠬᠦ ᠳᠦ ᠴᠢᠬᠤᠯᠠ ᠠᠴᠠ ᠤᠯᠤᠰ ᠲᠥᠷᠦ ᠶᠢᠨ ᠪᠣᠳᠯᠣᠭ᠎ᠠ ᠶᠢ ᠬᠡᠷᠡᠭᠵᠢᠭᠦᠯᠬᠦ ᠃ ᠮᠣᠩᠭᠣᠯ ᠦᠨᠳᠦᠰᠦᠲᠡᠨ ᠦ ᠦᠯᠡᠮᠵᠢ ᠰᠣᠶᠣᠯ ᠢ ᠬᠠᠮᠠᠭᠠᠯᠠᠨ ᠬᠥᠭᠵᠢᠭᠦᠯᠬᠦ ᠶᠢᠨ ᠲᠥᠯᠦᠭᠡ ᠶᠡᠬᠡ ᠠᠵᠢᠯ ᠢ ᠶᠠᠪᠤᠭᠤᠯᠵᠤ ᠪᠠᠶᠢᠨ᠎ᠠ ᠃ ᠡᠨᠡ ᠨᠢ ᠦᠨᠳᠦᠰᠦᠲᠡᠨ ᠦ ᠰᠤᠷᠭᠠᠯ ᠬᠦᠮᠦᠵᠢᠯ ᠢ ᠳᠡᠭᠡᠭᠰᠢᠯᠡᠭᠦᠯᠬᠦ ᠳᠦ ᠴᠢᠬᠤᠯᠠ ᠠᠴᠠ ᠤᠯᠤᠰ ᠲᠥᠷᠦ ᠶᠢᠨ ᠪᠣᠳᠯᠣᠭ᠎ᠠ ᠶᠢ ᠬᠡᠷᠡᠭᠵᠢᠭᠦᠯᠬᠦ ᠃ ᠮᠣᠩᠭᠣᠯ ᠦᠨᠳᠦᠰᠦᠲᠡᠨ ᠦ ᠦᠯᠡᠮᠵᠢ ᠰᠣᠶᠣᠯ ᠢ ᠬᠠᠮᠠᠭᠠᠯᠠᠨ ᠬᠥᠭᠵᠢᠭᠦᠯᠬᠦ ᠶᠢᠨ ᠲᠥᠯᠦᠭᠡ ᠶᠡᠬᠡ ᠠᠵᠢᠯ ᠢ ᠶᠠᠪᠤᠭᠤᠯᠵᠤ ᠪᠠᠶᠢᠨ᠎ᠠ ᠃ ᠡᠨᠡ ᠨᠢ ᠦᠨᠳᠦᠰᠦᠲᠡᠨ ᠦ ᠰᠤᠷᠭᠠᠯ ᠬᠦᠮᠦᠵᠢᠯ ᠢ ᠳᠡᠭᠡᠭᠰᠢᠯᠡᠭᠦᠯᠬᠦ ᠳᠦ ᠴᠢᠬᠤᠯᠠ ᠠᠴᠠ ᠤᠯᠤᠰ ᠲᠥᠷᠦ ᠶᠢᠨ ᠪᠣᠳᠯᠣᠭ᠎ᠠ ᠶᠢ ᠬᠡᠷᠡᠭᠵᠢᠭᠦᠯᠬᠦ ᠃ ᠮᠣᠩᠭᠣᠯ ᠦᠨᠳᠦᠰᠦᠲᠡᠨ ᠦ ᠦᠯᠡᠮᠵᠢ ᠰᠣᠶᠣᠯ ᠢ ᠬᠠᠮᠠᠭᠠᠯᠠᠨ ᠬᠥᠭᠵᠢᠭᠦᠯᠬᠦ ᠶᠢᠨ ᠲᠥᠯᠦᠭᠡ ᠶᠡᠬᠡ ᠠᠵᠢᠯ ᠢ ᠶᠠᠪᠤᠭᠤᠯᠵᠤ ᠪᠠᠶᠢᠨ᠎ᠠ ᠃ ᠡᠨᠡ ᠨᠢ ᠦᠨᠳᠦᠰᠦᠲᠡᠨ ᠦ ᠰᠤᠷᠭᠠᠯ ᠬᠦᠮᠦᠵᠢᠯ ᠢ ᠳᠡᠭᠡᠭᠰᠢᠯᠡᠭᠦᠯᠬᠦ ᠳᠦ ᠴᠢᠬᠤᠯᠠ ᠠᠴᠠ ᠤᠯᠤᠰ ᠲᠥᠷᠦ ᠶᠢᠨ ᠪᠣᠳᠯᠣᠭ᠎ᠠ ᠶᠢ ᠬᠡᠷᠡᠭᠵᠢᠭᠦᠯᠬᠦ ᠃ ᠮᠣᠩᠭᠣᠯ ᠦᠨᠳᠦᠰᠦᠲᠡᠨ ᠦ ᠦᠯᠡᠮᠵᠢ ᠰᠣᠶᠣᠯ ᠢ ᠬᠠᠮᠠᠭᠠᠯᠠᠨ ᠬᠥᠭᠵᠢᠭᠦᠯᠬᠦ ᠶᠢᠨ ᠲᠥᠯᠦᠭᠡ ᠶᠡᠬᠡ ᠠᠵᠢᠯ ᠢ ᠶᠠᠪᠤᠭᠤᠯᠵᠤ ᠪᠠᠶᠢᠨ᠎ᠠ ᠃ ᠡᠨᠡ ᠨᠢ ᠦᠨᠳᠦᠰᠦᠲᠡᠨ ᠦ ᠰᠤᠷᠭᠠᠯ ᠬᠦᠮᠦᠵᠢᠯ ᠢ ᠳᠡᠭᠡᠭᠰᠢᠯᠡᠭᠦᠯᠬᠦ ᠳᠦ ᠴᠢᠬᠤᠯᠠ ᠠᠴᠠ ᠤᠯᠤᠰ ᠲᠥᠷᠦ ᠶᠢᠨ ᠪᠣᠳᠯᠣᠭ᠎ᠠ ᠶᠢ ᠬᠡᠷᠡᠭᠵᠢᠭᠦᠯᠬᠦ ᠃ ᠮᠣᠩᠭᠣᠯ ᠦᠨᠳᠦᠰᠦᠲᠡᠨ ᠦ ᠦᠯᠡᠮᠵᠢ ᠰᠣᠶᠣᠯ ᠢ ᠬᠠᠮᠠᠭᠠᠯᠠᠨ ᠬᠥᠭᠵᠢᠭᠦᠯᠬᠦ ᠶᠢᠨ ᠲᠥᠯᠦᠭᠡ ᠶᠡᠬᠡ ᠠᠵᠢᠯ ᠢ ᠶᠠᠪᠤᠭᠤᠯᠵᠤ ᠪᠠᠶᠢᠨ᠎ᠠ ᠃ ᠡᠨᠡ ᠨᠢ ᠦᠨᠳᠦᠰᠦᠲᠡᠨ ᠦ ᠰᠤᠷᠭᠠᠯ ᠬᠦᠮᠦᠵᠢᠯ ᠢ ᠳᠡᠭᠡᠭᠰᠢᠯᠡᠭᠦᠯᠬᠦ ᠳᠦ ᠴᠢᠬᠤᠯᠠ ᠠᠴᠠ ᠤᠯᠤᠰ ᠲᠥᠷᠦ ᠶᠢᠨ ᠪᠣᠳᠯᠣᠭ᠎ᠠ ᠶᠢ ᠬᠡᠷᠡᠭᠵᠢᠭᠦᠯᠬᠦ ᠃ ᠮᠣᠩᠭᠣᠯ ᠦᠨᠳᠦᠰᠦᠲᠡᠨ ᠦ ᠦᠯᠡᠮᠵᠢ ᠰᠣᠶᠣᠯ ᠢ ᠬᠠᠮᠠᠭᠠᠯᠠᠨ ᠬᠥᠭᠵᠢᠭᠦᠯᠬᠦ ᠶᠢᠨ ᠲᠥᠯᠦᠭᠡ ᠶᠡᠬᠡ ᠠᠵᠢᠯ ᠢ ᠶᠠᠪᠤᠭᠤᠯᠵᠤ ᠪᠠᠶᠢᠨ᠎ᠠ ᠃ ᠡᠨᠡ ᠨᠢ ᠦᠨᠳᠦᠰᠦᠲᠡᠨ ᠦ ᠰᠤᠷᠭᠠᠯ ᠬᠦᠮᠦᠵᠢᠯ ᠢ ᠳᠡᠭᠡᠭᠰᠢᠯᠡᠭᠦᠯᠬᠦ ᠳᠦ ᠴᠢᠬᠤᠯᠠ ᠠᠴᠠ ᠤᠯᠤᠰ ᠲᠥᠷᠦ ᠶᠢᠨ ᠪᠣᠳᠯᠣᠭ᠎ᠠ ᠶᠢ ᠬᠡᠷᠡᠭᠵᠢᠭᠦᠯᠬᠦ ᠃ ᠮᠣᠩᠭᠣᠯ ᠦᠨᠳᠦᠰᠦᠲᠡᠨ ᠦ ᠦᠯᠡᠮᠵᠢ ᠰᠣᠶᠣᠯ ᠢ ᠬᠠᠮᠠᠭᠠᠯᠠᠨ ᠬᠥᠭᠵᠢᠭᠦᠯᠬᠦ ᠶᠢᠨ ᠲᠥᠯᠦᠭᠡ ᠶᠡᠬᠡ ᠠᠵᠢᠯ ᠢ ᠶᠠᠪᠤᠭᠤᠯᠵᠤ ᠪᠠᠶᠢᠨ᠎ᠠ ᠃ ᠡᠨᠡ ᠨᠢ ᠦᠨᠳᠦᠰᠦᠲᠡᠨ ᠦ ᠰᠤᠷᠭᠠᠯ ᠬᠦᠮᠦᠵᠢᠯ ᠢ ᠳᠡᠭᠡᠭᠰᠢᠯᠡᠭᠦᠯᠬᠦ ᠳᠦ ᠴᠢᠬᠤᠯᠠ ᠠᠴᠠ ᠤᠯᠤᠰ ᠲᠥᠷᠦ ᠶᠢᠨ ᠪᠣᠳᠯᠣᠭ᠎ᠠ ᠶᠢ ᠬᠡᠷᠡᠭᠵᠢᠭᠦᠯᠬᠦ ᠃ ᠮᠣᠩᠭᠣᠯ ᠦᠨᠳᠦᠰᠦᠲᠡᠨ ᠦ ᠦᠯᠡᠮᠵᠢ ᠰᠣᠶᠣᠯ ᠢ ᠬᠠᠮᠠᠭᠠᠯᠠᠨ ᠬᠥᠭᠵᠢᠭᠦᠯᠬᠦ ᠶᠢᠨ ᠲᠥᠯᠦᠭᠡ ᠶᠡᠬᠡ ᠠᠵᠢᠯ ᠢ ᠶᠠᠪᠤᠭᠤᠯᠵᠤ ᠪᠠᠶᠢᠨ᠎ᠠ ᠃ ᠡᠨᠡ ᠨᠢ ᠦᠨᠳᠦᠰᠦᠲᠡᠨ ᠦ ᠰᠤᠷᠭᠠᠯ ᠬᠦᠮᠦᠵᠢᠯ ᠢ ᠳᠡᠭᠡᠭᠰᠢᠯᠡᠭᠦᠯᠬᠦ ᠳᠦ ᠴᠢᠬᠤᠯᠠ ᠠᠴᠠ ᠤᠯᠤᠰ ᠲᠥᠷᠦ ᠶᠢᠨ ᠪᠣᠳᠯᠣᠭ᠎ᠠ ᠶᠢ ᠬᠡᠷᠡᠭᠵᠢᠭᠦᠯᠬᠦ ᠃ ᠮᠣᠩᠭᠣᠯ ᠦᠨᠳᠦᠰᠦᠲᠡᠨ ᠦ ᠦᠯᠡᠮᠵᠢ ᠰᠣᠶᠣᠯ ᠢ ᠬᠠᠮᠠᠭᠠᠯᠠᠨ ᠬᠥᠭᠵᠢᠭᠦᠯᠬᠦ ᠶᠢᠨ ᠲᠥᠯᠦᠭᠡ ᠶᠡᠬᠡ ᠠᠵᠢᠯ ᠢ ᠶᠠᠪᠤᠭᠤᠯᠵᠤ ᠪᠠᠶᠢᠨ᠎ᠠ ᠃ ᠡᠨᠡ ᠨᠢ ᠦᠨᠳᠦᠰᠦᠲᠡᠨ ᠦ ᠰᠤᠷᠭᠠᠯ ᠬᠦᠮᠦᠵᠢᠯ ᠢ ᠳᠡᠭᠡᠭᠰᠢᠯᠡᠭᠦᠯᠬᠦ ᠳᠦ ᠴᠢᠬᠤᠯᠠ ᠠᠴᠠ ᠤᠯᠤᠰ ᠲᠥᠷᠦ ᠶᠢᠨ ᠪᠣᠳᠯᠣᠭ᠎ᠠ ᠶᠢ ᠬᠡᠷᠡᠭᠵᠢᠭᠦᠯᠬᠦ ᠃ ᠮᠣᠩᠭᠣᠯ ᠦᠨᠳᠦᠰᠦᠲᠡᠨ ᠦ ᠦᠯᠡᠮᠵᠢ ᠰᠣᠶᠣᠯ ᠢ ᠬᠠᠮᠠᠭᠠᠯᠠᠨ ᠬᠥᠭᠵᠢᠭᠦᠯᠬᠦ ᠶᠢᠨ ᠲᠥᠯᠦᠭᠡ ᠶᠡᠬᠡ ᠠᠵᠢᠯ ᠢ ᠶᠠᠪᠤᠭᠤᠯᠵᠤ ᠪᠠᠶᠢᠨ᠎ᠠ ᠃ ᠡᠨᠡ ᠨᠢ ᠦᠨᠳᠦᠰᠦᠲᠡᠨ ᠦ ᠰᠤᠷᠭᠠᠯ ᠬᠦᠮᠦᠵᠢᠯ ᠢ ᠳᠡᠭᠡᠭᠰᠢᠯᠡᠭᠦᠯᠬᠦ ᠳᠦ ᠴᠢᠬᠤᠯᠠ ᠠᠴᠠ ᠤᠯᠤᠰ ᠲᠥᠷᠦ ᠶᠢᠨ ᠪᠣᠳᠯᠣᠭ᠎ᠠ ᠶᠢ ᠬᠡᠷᠡᠭᠵᠢᠭᠦᠯᠬᠦ ᠃ ᠮᠣᠩᠭᠣᠯ ᠦᠨᠳᠦᠰᠦᠲᠡᠨ ᠦ ᠦᠯᠡᠮᠵᠢ ᠰᠣᠶᠣᠯ ᠢ ᠬᠠᠮᠠᠭᠠᠯᠠᠨ ᠬᠥᠭᠵᠢᠭᠦᠯᠬᠦ ᠶᠢᠨ ᠲᠥᠯᠦᠭᠡ ᠶᠡᠬᠡ ᠠᠵᠢᠯ ᠢ ᠶᠠᠪᠤᠭᠤᠯᠵᠤ ᠪᠠᠶᠢᠨ᠎ᠠ ᠃ ᠡᠨᠡ ᠨᠢ ᠦᠨᠳᠦᠰᠦᠲᠡᠨ ᠦ ᠰᠤᠷᠭᠠᠯ ᠬᠦᠮᠦᠵᠢᠯ ᠢ ᠳᠡᠭᠡᠭᠰᠢᠯᠡᠭᠦᠯᠬᠦ ᠳᠦ ᠴᠢᠬᠤᠯᠠ ᠠᠴᠠ ᠤᠯᠤᠰ ᠲᠥᠷᠦ ᠶᠢᠨ ᠪᠣᠳᠯᠣᠭ᠎ᠠ ᠶᠢ ᠬᠡᠷᠡᠭᠵᠢᠭᠦᠯᠬᠦ ᠃ ᠮᠣᠩᠭᠣᠯ ᠦᠨᠳᠦᠰᠦᠲᠡᠨ ᠦ ᠦᠯᠡᠮᠵᠢ ᠰᠣᠶᠣᠯ ᠢ ᠬᠠᠮᠠᠭᠠᠯᠠᠨ ᠬᠥᠭᠵᠢᠭᠦᠯᠬᠦ ᠶᠢᠨ ᠲᠥᠯᠦᠭᠡ ᠶᠡᠬᠡ ᠠᠵᠢᠯ ᠢ ᠶᠠᠪᠤᠭᠤᠯᠵᠤ ᠪᠠᠶᠢᠨ᠎ᠠ ᠃ ᠡᠨᠡ ᠨᠢ ᠦᠨᠳᠦᠰᠦᠲᠡᠨ ᠦ ᠰᠤᠷᠭᠠᠯ ᠬᠦᠮᠦᠵᠢᠯ ᠢ ᠳᠡᠭᠡᠭᠰᠢᠯᠡᠭᠦᠯᠬᠦ ᠳᠦ ᠴᠢᠬᠤᠯᠠ ᠠᠴᠠ ᠤᠯᠤᠰ ᠲᠥᠷᠦ ᠶᠢᠨ ᠪᠣᠳᠯᠣᠭ᠎ᠠ ᠶᠢ ᠬᠡᠷᠡᠭᠵᠢᠭᠦᠯᠬᠦ ᠃ ᠮᠣᠩᠭᠣᠯ ᠦᠨᠳᠦᠰᠦᠲᠡᠨ ᠦ ᠦᠯᠡᠮᠵᠢ ᠰᠣᠶᠣᠯ ᠢ ᠬᠠᠮᠠᠭᠠᠯᠠᠨ ᠬᠥᠭᠵᠢᠭᠦᠯᠬᠦ ᠶᠢᠨ ᠲᠥᠯᠦᠭᠡ ᠶᠡᠬᠡ ᠠᠵᠢᠯ ᠢ ᠶᠠᠪᠤᠭᠤᠯᠵᠤ ᠪᠠᠶᠢᠨ᠎ᠠ ᠃ ᠡᠨᠡ ᠨᠢ ᠦᠨᠳᠦᠰᠦᠲᠡᠨ ᠦ ᠰᠤᠷᠭᠠᠯ ᠬᠦᠮᠦᠵᠢᠯ ᠢ ᠳᠡᠭᠡᠭᠰᠢᠯᠡᠭᠦᠯᠬᠦ ᠳᠦ ᠴᠢᠬᠤᠯᠠ ᠠᠴᠠ ᠤᠯᠤᠰ ᠲᠥᠷᠦ ᠶᠢᠨ ᠪᠣᠳᠯᠣᠭ᠎ᠠ ᠶᠢ ᠬᠡᠷᠡᠭᠵᠢᠭᠦᠯᠬᠦ ᠃ ᠮᠣᠩᠭᠣᠯ ᠦᠨᠳᠦᠰᠦᠲᠡᠨ ᠦ ᠦᠯᠡᠮᠵᠢ ᠰᠣᠶᠣᠯ ᠢ ᠬᠠᠮᠠᠭᠠᠯᠠᠨ ᠬᠥᠭᠵᠢᠭᠦᠯᠬᠦ ᠶᠢᠨ ᠲᠥᠯᠦᠭᠡ ᠶᠡᠬᠡ ᠠᠵᠢᠯ ᠢ ᠶᠠᠪᠤᠭᠤᠯᠵᠤ ᠪᠠᠶᠢᠨ᠎ᠠ ᠃ ᠡᠨᠡ ᠨᠢ ᠦᠨᠳᠦᠰᠦᠲᠡᠨ ᠦ ᠰᠤᠷᠭᠠᠯ ᠬᠦᠮᠦᠵᠢᠯ ᠢ ᠳᠡᠭᠡᠭᠰᠢᠯᠡᠭᠦᠯᠬᠦ ᠳᠦ ᠴᠢᠬᠤᠯᠠ ᠠᠴᠠ ᠤᠯᠤᠰ ᠲᠥᠷᠦ ᠶᠢᠨ ᠪᠣᠳᠯᠣᠭ᠎ᠠ ᠶᠢ ᠬᠡᠷᠡᠭᠵᠢᠭᠦᠯᠬᠦ ᠃ ᠮᠣᠩᠭᠣᠯ ᠦᠨᠳᠦᠰᠦᠲᠡᠨ ᠦ ᠦᠯᠡᠮᠵᠢ ᠰᠣᠶᠣᠯ ᠢ ᠬᠠᠮᠠᠭᠠᠯᠠᠨ ᠬᠥᠭᠵᠢᠭᠦᠯᠬᠦ ᠶᠢᠨ ᠲᠥᠯᠦᠭᠡ ᠶᠡᠬᠡ ᠠᠵᠢᠯ ᠢ ᠶᠠᠪᠤᠭᠤᠯᠵᠤ ᠪᠠᠶᠢᠨ᠎ᠠ ᠃ ᠡᠨᠡ ᠨᠢ ᠦᠨᠳᠦᠰᠦᠲᠡᠨ ᠦ ᠰᠤᠷᠭᠠᠯ ᠬᠦᠮᠦᠵᠢᠯ ᠢ ᠳᠡᠭᠡᠭᠰᠢᠯᠡᠭᠦᠯᠬᠦ ᠳᠦ ᠴᠢᠬᠤᠯᠠ ᠠᠴᠠ ᠤᠯᠤᠰ ᠲᠥᠷᠦ ᠶᠢᠨ ᠪᠣᠳᠯᠣᠭ᠎ᠠ ᠶᠢ ᠬᠡᠷᠡᠭᠵᠢᠭᠦᠯᠬᠦ ᠃ ᠮᠣᠩᠭᠣᠯ ᠦᠨᠳᠦᠰᠦᠲᠡᠨ ᠦ ᠦᠯᠡᠮᠵᠢ ᠰᠣᠶᠣᠯ ᠢ ᠬᠠᠮᠠᠭᠠᠯᠠᠨ ᠬᠥᠭᠵᠢᠭᠦᠯᠬᠦ ᠶᠢᠨ ᠲᠥᠯᠦᠭᠡ ᠶᠡᠬᠡ ᠠᠵᠢᠯ ᠢ ᠶᠠᠪᠤᠭᠤᠯᠵᠤ ᠪᠠᠶᠢᠨ᠎ᠠ ᠃ ᠡᠨᠡ ᠨᠢ ᠦᠨᠳᠦᠰᠦᠲᠡᠨ ᠦ ᠰᠤᠷᠭᠠᠯ ᠬᠦᠮᠦᠵᠢᠯ ᠢ ᠳᠡᠭᠡᠭᠰᠢᠯᠡᠭᠦᠯᠬᠦ ᠳᠦ ᠴᠢᠬᠤᠯᠠ ᠠᠴᠠ ᠤᠯᠤᠰ ᠲᠥᠷᠦ ᠶᠢᠨ ᠪᠣᠳᠯᠣᠭ᠎ᠠ ᠶᠢ ᠬᠡᠷᠡᠭᠵᠢᠭᠦᠯᠬᠦ ᠃ ᠮᠣᠩᠭᠣᠯ ᠦᠨᠳᠦᠰᠦᠲᠡᠨ ᠦ ᠦᠯᠡᠮᠵᠢ ᠰᠣᠶᠣᠯ ᠢ ᠬᠠᠮᠠᠭᠠᠯᠠᠨ ᠬᠥᠭᠵᠢᠭᠦᠯᠬᠦ ᠶᠢᠨ ᠲᠥᠯᠦᠭᠡ ᠶᠡᠬᠡ ᠠᠵᠢᠯ ᠢ ᠶᠠᠪᠤᠭᠤᠯᠵᠤ ᠪᠠᠶᠢᠨ᠎ᠠ ᠃ ᠡᠨᠡ ᠨᠢ ᠦᠨᠳᠦᠰᠦᠲᠡᠨ ᠦ ᠰᠤᠷᠭᠠᠯ ᠬᠦᠮᠦᠵᠢᠯ ᠢ ᠳᠡᠭᠡᠭᠰᠢᠯᠡᠭᠦᠯᠬᠦ ᠳᠦ ᠴᠢᠬᠤᠯᠠ ᠠᠴᠠ ᠤᠯᠤᠰ ᠲᠥᠷᠦ ᠶᠢᠨ ᠪᠣᠳᠯᠣᠭ᠎ᠠ ᠶᠢ ᠬᠡᠷᠡᠭᠵᠢᠭᠦᠯᠬᠦ ᠃ ᠮᠣᠩᠭᠣᠯ ᠦᠨᠳᠦᠰᠦᠲᠡᠨ ᠦ ᠦᠯᠡᠮᠵᠢ ᠰᠣᠶᠣᠯ ᠢ ᠬᠠᠮᠠᠭᠠᠯᠠᠨ ᠬᠥᠭᠵᠢᠭᠦᠯᠬᠦ ᠶᠢᠨ ᠲᠥᠯᠦᠭᠡ ᠶᠡᠬᠡ ᠠᠵᠢᠯ ᠢ ᠶᠠᠪᠤᠭᠤᠯᠵᠤ ᠪᠠᠶᠢᠨ᠎ᠠ ᠃ ᠡᠨᠡ ᠨᠢ ᠦᠨᠳᠦᠰᠦᠲᠡᠨ ᠦ ᠰᠤᠷᠭᠠᠯ ᠬᠦᠮᠦᠵᠢᠯ ᠢ ᠳᠡᠭᠡᠭᠰᠢᠯᠡᠭᠦᠯᠬᠦ ᠳᠦ ᠴᠢᠬᠤᠯᠠ ᠠᠴᠠ ᠤᠯᠤᠰ ᠲᠥᠷᠦ ᠶᠢᠨ ᠪᠣᠳᠯᠣᠭ᠎ᠠ ᠶᠢ ᠬᠡᠷᠡᠭᠵᠢᠭᠦᠯᠬᠦ ᠃ ᠮᠣᠩᠭᠣᠯ ᠦᠨᠳᠦᠰᠦᠲᠡᠨ ᠦ ᠦᠯᠡᠮᠵᠢ ᠰᠣᠶᠣᠯ ᠢ ᠬᠠᠮᠠᠭᠠᠯᠠᠨ ᠬᠥᠭᠵᠢᠭᠦᠯᠬᠦ ᠶᠢᠨ ᠲᠥᠯᠦᠭᠡ ᠶᠡᠬᠡ ᠠᠵᠢᠯ ᠢ ᠶᠠᠪᠤᠭᠤᠯᠵᠤ ᠪᠠᠶᠢᠨ᠎ᠠ ᠃ ᠡᠨᠡ ᠨᠢ ᠦᠨᠳᠦᠰᠦᠲᠡᠨ ᠦ ᠰᠤᠷᠭᠠᠯ ᠬᠦᠮᠦᠵᠢᠯ ᠢ ᠳᠡᠭᠡᠭᠰᠢᠯᠡᠭᠦᠯᠬᠦ ᠳᠦ ᠴᠢᠬᠤᠯᠠ ᠠᠴᠠ ᠤᠯᠤᠰ ᠲᠥᠷᠦ ᠶᠢᠨ ᠪᠣᠳᠯᠣᠭ᠎ᠠ ᠶᠢ ᠬᠡᠷᠡᠭᠵᠢᠭᠦᠯᠬᠦ ᠃ ᠮᠣᠩᠭᠣᠯ ᠦᠨᠳᠦᠰᠦᠲᠡᠨ ᠦ ᠦᠯᠡᠮᠵᠢ ᠰᠣᠶᠣᠯ ᠢ ᠬᠠᠮᠠᠭᠠᠯᠠᠨ ᠬᠥᠭᠵᠢᠭᠦᠯᠬᠦ ᠶᠢᠨ ᠲᠥᠯᠦᠭᠡ ᠶᠡᠬᠡ ᠠᠵᠢᠯ ᠢ ᠶᠠᠪᠤᠭᠤᠯᠵᠤ ᠪᠠᠶᠢᠨ᠎ᠠ ᠃ ᠡᠨᠡ ᠨᠢ ᠦᠨᠳᠦᠰᠦᠲᠡᠨ ᠦ ᠰᠤᠷᠭᠠᠯ ᠬᠦᠮᠦᠵᠢᠯ ᠢ ᠳᠡᠭᠡᠭᠰᠢᠯᠡᠭᠦᠯᠬᠦ ᠳᠦ ᠴᠢᠬᠤᠯᠠ ᠠᠴᠠ ᠤᠯᠤᠰ ᠲᠥᠷᠦ ᠶᠢᠨ ᠪᠣᠳᠯᠣᠭ᠎ᠠ ᠶᠢ ᠬᠡᠷᠡᠭᠵᠢᠭᠦᠯᠬᠦ ᠃ ᠮᠣᠩᠭᠣᠯ ᠦᠨᠳᠦᠰᠦᠲᠡᠨ ᠦ ᠦᠯᠡᠮᠵᠢ ᠰᠣᠶᠣᠯ ᠢ ᠬᠠᠮᠠᠭᠠᠯᠠᠨ ᠬᠥᠭᠵᠢᠭᠦᠯᠬᠦ ᠶᠢᠨ ᠲᠥᠯᠦᠭᠡ ᠶᠡᠬᠡ ᠠᠵᠢᠯ ᠢ ᠶᠠᠪᠤᠭᠤᠯᠵᠤ ᠪᠠᠶᠢᠨ᠎ᠠ ᠃ ᠡᠨᠡ ᠨᠢ ᠦᠨᠳᠦᠰᠦᠲᠡᠨ ᠦ ᠰᠤᠷᠭᠠᠯ ᠬᠦᠮᠦᠵᠢᠯ ᠢ ᠳᠡᠭᠡᠭᠰᠢᠯᠡᠭᠦᠯᠬᠦ ᠳᠦ ᠴᠢᠬᠤᠯᠠ ᠠᠴᠠ ᠤᠯᠤᠰ ᠲᠥᠷᠦ ᠶᠢᠨ ᠪᠣᠳᠯᠣᠭ᠎ᠠ ᠶᠢ ᠬᠡᠷᠡᠭᠵᠢᠭᠦᠯᠬᠦ ᠃ ᠮᠣᠩᠭᠣᠯ ᠦᠨᠳᠦᠰᠦᠲᠡᠨ ᠦ ᠦᠯᠡᠮᠵᠢ ᠰᠣᠶᠣᠯ ᠢ ᠬᠠᠮᠠᠭᠠᠯᠠᠨ ᠬᠥᠭᠵᠢᠭᠦᠯᠬᠦ ᠶᠢᠨ ᠲᠥᠯᠦᠭᠡ ᠶᠡᠬᠡ ᠠᠵᠢᠯ ᠢ ᠶᠠᠪᠤᠭᠤᠯᠵᠤ ᠪᠠᠶᠢᠨ᠎ᠠ ᠃ ᠡᠨᠡ ᠨᠢ ᠦᠨᠳᠦᠰᠦᠲᠡᠨ ᠦ ᠰᠤᠷᠭᠠᠯ ᠬᠦᠮᠦᠵᠢᠯ ᠢ ᠳᠡᠭᠡᠭᠰᠢᠯᠡᠭᠦᠯᠬᠦ ᠳᠦ ᠴᠢᠬᠤᠯᠠ ᠠᠴᠠ ᠤᠯᠤᠰ ᠲᠥᠷᠦ ᠶᠢᠨ ᠪᠣᠳᠯᠣᠭ᠎ᠠ ᠶᠢ ᠬᠡᠷᠡᠭᠵᠢᠭᠦᠯᠬᠦ ᠃ ᠮᠣᠩᠭᠣᠯ ᠦᠨᠳᠦᠰᠦᠲᠡᠨ ᠦ ᠦᠯᠡᠮᠵᠢ ᠰᠣᠶᠣᠯ ᠢ ᠬᠠᠮᠠᠭᠠᠯᠠᠨ ᠬᠥᠭᠵᠢᠭᠦᠯᠬᠦ ᠶᠢᠨ ᠲᠥᠯᠦᠭᠡ ᠶᠡᠬᠡ ᠠᠵᠢᠯ ᠢ ᠶᠠᠪᠤᠭᠤᠯᠵᠤ ᠪᠠᠶᠢᠨ᠎ᠠ ᠃ ᠡᠨᠡ ᠨᠢ ᠦᠨᠳᠦᠰᠦᠲᠡᠨ ᠦ ᠰᠤᠷᠭᠠᠯ ᠬᠦᠮᠦᠵᠢᠯ ᠢ ᠳᠡᠭᠡᠭᠰᠢᠯᠡᠭᠦᠯᠬᠦ ᠳᠦ ᠴᠢᠬᠤᠯᠠ ᠠᠴᠠ ᠤᠯᠤᠰ ᠲᠥᠷᠦ ᠶᠢᠨ ᠪᠣᠳᠯᠣᠭ᠎ᠠ ᠶᠢ ᠬᠡᠷᠡᠭᠵᠢᠭᠦᠯᠬᠦ ᠃ ᠮᠣᠩᠭᠣᠯ ᠦᠨᠳᠦᠰᠦᠲᠡᠨ ᠦ ᠦᠯᠡᠮᠵᠢ ᠰᠣᠶᠣᠯ ᠢ ᠬᠠᠮᠠᠭᠠᠯᠠᠨ ᠬᠥᠭᠵᠢᠭᠦᠯᠬᠦ ᠶᠢᠨ ᠲᠥᠯᠦᠭᠡ ᠶᠡᠬᠡ ᠠᠵᠢᠯ ᠢ ᠶᠠᠪᠤᠭᠤᠯᠵᠤ ᠪᠠᠶᠢᠨ᠎ᠠ ᠃ ᠡᠨᠡ ᠨᠢ ᠦᠨᠳᠦᠰᠦᠲᠡᠨ ᠦ ᠰᠤᠷᠭᠠᠯ ᠬᠦᠮᠦᠵᠢᠯ ᠢ ᠳᠡᠭᠡᠭᠰᠢᠯᠡᠭᠦᠯᠬᠦ ᠳᠦ ᠴᠢᠬᠤᠯᠠ ᠠᠴᠠ ᠤᠯᠤᠰ ᠲᠥᠷᠦ ᠶᠢᠨ ᠪᠣᠳᠯᠣᠭ᠎ᠠ ᠶᠢ ᠬᠡᠷᠡᠭᠵᠢᠭᠦᠯᠬᠦ ᠃ ᠮᠣᠩᠭᠣᠯ ᠦᠨᠳᠦᠰᠦᠲᠡᠨ ᠦ ᠦᠯᠡᠮᠵᠢ ᠰᠣᠶᠣᠯ ᠢ ᠬᠠᠮᠠᠭᠠᠯᠠᠨ ᠬᠥᠭᠵᠢᠭᠦᠯᠬᠦ ᠶᠢᠨ ᠲᠥᠯᠦᠭᠡ ᠶᠡᠬᠡ ᠠᠵᠢᠯ ᠢ ᠶᠠᠪᠤᠭᠤᠯᠵᠤ ᠪᠠᠶᠢᠨ᠎ᠠ ᠃ ᠡᠨᠡ ᠨᠢ ᠦᠨᠳᠦᠰᠦᠲᠡᠨ ᠦ ᠰᠤᠷᠭᠠᠯ ᠬᠦᠮᠦᠵᠢᠯ ᠢ ᠳᠡᠭᠡᠭᠰᠢᠯᠡᠭᠦᠯᠬᠦ ᠳᠦ ᠴᠢᠬᠤᠯᠠ ᠠᠴᠠ ᠤᠯᠤᠰ ᠲᠥᠷᠦ ᠶᠢᠨ ᠪᠣᠳᠯᠣᠭ᠎ᠠ ᠶᠢ ᠬᠡᠷᠡᠭᠵᠢᠭᠦᠯᠬᠦ ᠃ ᠮᠣᠩᠭᠣᠯ ᠦᠨᠳᠦᠰᠦᠲᠡᠨ ᠦ ᠦᠯᠡᠮᠵᠢ ᠰᠣᠶᠣᠯ ᠢ ᠬᠠᠮᠠᠭᠠᠯᠠᠨ ᠬᠥᠭᠵᠢᠭᠦᠯᠬᠦ ᠶᠢᠨ ᠲᠥᠯᠦᠭᠡ ᠶᠡᠬᠡ ᠠᠵᠢᠯ ᠢ ᠶᠠᠪᠤᠭᠤᠯᠵᠤ ᠪᠠᠶᠢᠨ᠎ᠠ ᠃ ᠡᠨᠡ ᠨᠢ ᠦᠨᠳᠦᠰᠦᠲᠡᠨ ᠦ ᠰᠤᠷᠭᠠᠯ ᠬᠦᠮᠦᠵᠢᠯ ᠢ ᠳᠡᠭᠡᠭᠰᠢᠯᠡᠭᠦᠯᠬᠦ ᠳᠦ ᠴᠢᠬᠤᠯᠠ ᠠᠴᠠ ᠤᠯᠤᠰ ᠲᠥᠷᠦ ᠶᠢᠨ ᠪᠣᠳᠯᠣᠭ᠎ᠠ ᠶᠢ ᠬᠡᠷᠡᠭᠵᠢᠭᠦᠯᠬᠦ ᠃ ᠮᠣᠩᠭᠣᠯ ᠦᠨᠳᠦᠰᠦᠲᠡᠨ ᠦ ᠦᠯᠡᠮᠵᠢ ᠰᠣᠶᠣᠯ ᠢ ᠬᠠᠮᠠᠭᠠᠯᠠᠨ ᠬᠥᠭᠵᠢᠭᠦᠯᠬᠦ ᠶᠢᠨ ᠲᠥᠯᠦᠭᠡ ᠶᠡᠬᠡ ᠠᠵᠢᠯ ᠢ ᠶᠠᠪᠤᠭᠤᠯᠵᠤ ᠪᠠᠶᠢᠨ᠎ᠠ ᠃ ᠡᠨᠡ ᠨᠢ ᠦᠨᠳᠦᠰᠦᠲᠡᠨ ᠦ ᠰᠤᠷᠭᠠᠯ ᠬᠦᠮᠦᠵᠢᠯ ᠢ ᠳᠡᠭᠡᠭᠰᠢᠯᠡᠭᠦᠯᠬᠦ ᠳᠦ ᠴᠢᠬᠤᠯᠠ ᠠᠴᠠ ᠤᠯᠤᠰ ᠲᠥᠷᠦ ᠶᠢᠨ ᠪᠣᠳᠯᠣᠭ᠎ᠠ ᠶᠢ ᠬᠡᠷᠡᠭᠵᠢᠭᠦᠯᠬᠦ ᠃ ᠮᠣᠩᠭᠣᠯ ᠦᠨᠳᠦᠰᠦᠲᠡᠨ ᠦ ᠦᠯᠡᠮᠵᠢ ᠰᠣᠶᠣᠯ ᠢ ᠬᠠᠮᠠᠭᠠᠯᠠᠨ ᠬᠥᠭᠵᠢᠭᠦᠯᠬᠦ ᠶᠢᠨ ᠲᠥᠯᠦᠭᠡ ᠶᠡᠬᠡ ᠠᠵᠢᠯ ᠢ ᠶᠠᠪᠤᠭᠤᠯᠵᠤ ᠪᠠᠶᠢᠨ᠎ᠠ ᠃ ᠡᠨᠡ ᠨᠢ ᠦᠨᠳᠦᠰᠦᠲᠡᠨ ᠦ ᠰᠤᠷᠭᠠᠯ ᠬᠦᠮᠦᠵᠢᠯ ᠢ ᠳᠡᠭᠡᠭᠰᠢᠯᠡᠭᠦᠯᠬᠦ ᠳᠦ ᠴᠢᠬᠤᠯᠠ ᠠᠴᠠ ᠤᠯᠤᠰ ᠲᠥᠷᠦ ᠶᠢᠨ ᠪᠣᠳᠯᠣᠭ᠎ᠠ ᠶᠢ ᠬᠡᠷᠡᠭᠵᠢᠭᠦᠯᠬᠦ ᠃ ᠮᠣᠩᠭᠣᠯ ᠦᠨᠳᠦᠰᠦᠲᠡᠨ ᠦ ᠦᠯᠡᠮᠵᠢ ᠰᠣᠶᠣᠯ ᠢ ᠬᠠᠮᠠᠭᠠᠯᠠᠨ ᠬᠥᠭᠵᠢᠭᠦᠯᠬᠦ ᠶᠢᠨ ᠲᠥᠯᠦᠭᠡ ᠶᠡᠬᠡ ᠠᠵᠢᠯ ᠢ ᠶᠠᠪᠤᠭᠤᠯᠵᠤ ᠪᠠᠶᠢᠨ᠎ᠠ ᠃ ᠡᠨᠡ ᠨᠢ ᠦᠨᠳᠦᠰᠦᠲᠡᠨ ᠦ ᠰᠤᠷᠭᠠᠯ ᠬᠦᠮᠦᠵᠢᠯ ᠢ ᠳᠡᠭᠡᠭᠰᠢᠯᠡᠭᠦᠯᠬᠦ ᠳᠦ ᠴᠢᠬᠤᠯᠠ ᠠᠴᠠ ᠤᠯᠤᠰ ᠲᠥᠷᠦ ᠶᠢᠨ ᠪᠣᠳᠯᠣᠭ᠎ᠠ ᠶᠢ ᠬᠡᠷᠡᠭᠵᠢᠭᠦᠯᠬᠦ ᠃ ᠮᠣᠩᠭᠣᠯ ᠦᠨᠳᠦᠰᠦᠲᠡᠨ ᠦ ᠦᠯᠡᠮᠵᠢ ᠰᠣᠶᠣᠯ ᠢ ᠬᠠᠮᠠᠭᠠᠯᠠᠨ ᠬᠥᠭᠵᠢᠭᠦᠯᠬᠦ ᠶᠢᠨ ᠲᠥᠯᠦᠭᠡ ᠶᠡᠬᠡ ᠠᠵᠢᠯ ᠢ ᠶᠠᠪᠤᠭᠤᠯᠵᠤ ᠪᠠᠶᠢᠨ᠎ᠠ ᠃ ᠡᠨᠡ ᠨᠢ ᠦᠨᠳᠦᠰᠦᠲᠡᠨ ᠦ ᠰᠤᠷᠭᠠᠯ ᠬᠦᠮᠦᠵᠢᠯ ᠢ ᠳᠡᠭᠡᠭᠰᠢᠯᠡᠭᠦᠯᠬᠦ ᠳᠦ ᠴᠢᠬᠤᠯᠠ ᠠᠴᠠ ᠤᠯᠤᠰ ᠲᠥᠷᠦ ᠶᠢᠨ ᠪᠣᠳᠯᠣᠭ᠎ᠠ ᠶᠢ ᠬᠡᠷᠡᠭᠵᠢᠭᠦᠯᠬᠦ ᠃ ᠮᠣᠩᠭᠣᠯ ᠦᠨᠳᠦᠰᠦᠲᠡᠨ ᠦ ᠦᠯᠡᠮᠵᠢ ᠰᠣᠶᠣᠯ ᠢ ᠬᠠᠮᠠᠭᠠᠯᠠᠨ ᠬᠥᠭᠵᠢᠭᠦᠯᠬᠦ ᠶᠢᠨ ᠲᠥᠯᠦᠭᠡ ᠶᠡᠬᠡ ᠠᠵᠢᠯ ᠢ ᠶᠠᠪᠤᠭᠤᠯᠵᠤ ᠪᠠᠶᠢᠨ᠎ᠠ ᠃ ᠡᠨᠡ ᠨᠢ ᠦᠨᠳᠦᠰᠦᠲᠡᠨ ᠦ ᠰᠤᠷᠭᠠᠯ ᠬᠦᠮᠦᠵᠢᠯ ᠢ ᠳᠡᠭᠡᠭᠰᠢᠯᠡᠭᠦᠯᠬᠦ ᠳᠦ ᠴᠢᠬᠤᠯᠠ ᠠᠴᠠ ᠤᠯᠤᠰ ᠲᠥᠷᠦ ᠶᠢᠨ ᠪᠣᠳᠯᠣᠭ᠎ᠠ ᠶᠢ ᠬᠡᠷᠡᠭᠵᠢᠭᠦᠯᠬᠦ ᠃ ᠮᠣᠩᠭᠣᠯ ᠦᠨᠳᠦᠰᠦᠲᠡᠨ ᠦ ᠦᠯᠡᠮᠵᠢ ᠰᠣᠶᠣᠯ ᠢ ᠬᠠᠮᠠᠭᠠᠯᠠᠨ ᠬᠥᠭᠵᠢᠭᠦᠯᠬᠦ ᠶᠢᠨ ᠲᠥᠯᠦᠭᠡ ᠶᠡᠬᠡ ᠠᠵᠢᠯ ᠢ ᠶᠠᠪᠤᠭᠤᠯᠵᠤ ᠪᠠᠶᠢᠨ᠎ᠠ ᠃ ᠡᠨᠡ ᠨᠢ ᠦᠨᠳᠦᠰᠦᠲᠡᠨ ᠦ ᠰᠤᠷᠭᠠᠯ ᠬᠦᠮᠦᠵᠢᠯ ᠢ ᠳᠡᠭᠡᠭᠰᠢᠯᠡᠭᠦᠯᠬᠦ ᠳᠦ ᠴᠢᠬᠤᠯᠠ ᠠᠴᠠ ᠤᠯᠤᠰ ᠲᠥᠷᠦ ᠶᠢᠨ ᠪᠣᠳᠯᠣᠭ᠎ᠠ ᠶᠢ ᠬᠡᠷᠡᠭᠵᠢᠭᠦᠯᠬᠦ ᠃ ᠮᠣᠩᠭᠣᠯ ᠦᠨᠳᠦᠰᠦᠲᠡᠨ ᠦ ᠦᠯᠡᠮᠵᠢ ᠰᠣᠶᠣᠯ ᠢ ᠬᠠᠮᠠᠭᠠᠯᠠᠨ ᠬᠥᠭᠵᠢᠭᠦᠯᠬᠦ ᠶᠢᠨ ᠲᠥᠯᠦᠭᠡ ᠶᠡᠬᠡ ᠠᠵᠢᠯ ᠢ ᠶᠠᠪᠤᠭᠤᠯᠵᠤ ᠪᠠᠶᠢᠨ᠎ᠠ ᠃ ᠡᠨᠡ ᠨᠢ ᠦᠨᠳᠦᠰᠦᠲᠡᠨ ᠦ ᠰᠤᠷᠭᠠᠯ ᠬᠦᠮᠦᠵᠢᠯ ᠢ ᠳᠡᠭᠡᠭᠰᠢᠯᠡᠭᠦᠯᠬᠦ ᠳᠦ ᠴᠢᠬᠤᠯᠠ ᠠᠴᠠ ᠤᠯᠤᠰ ᠲᠥᠷᠦ ᠶᠢᠨ ᠪᠣᠳᠯᠣᠭ᠎ᠠ ᠶᠢ ᠬᠡᠷᠡᠭᠵᠢᠭᠦᠯᠬᠦ ᠃ ᠮᠣᠩᠭᠣᠯ ᠦᠨᠳᠦᠰᠦᠲᠡᠨ ᠦ ᠦᠯᠡᠮᠵᠢ ᠰᠣᠶᠣᠯ ᠢ ᠬᠠᠮᠠᠭᠠᠯᠠᠨ ᠬᠥᠭᠵᠢᠭᠦᠯᠬᠦ ᠶᠢᠨ ᠲᠥᠯᠦᠭᠡ ᠶᠡᠬᠡ ᠠᠵᠢᠯ ᠢ ᠶᠠᠪᠤᠭᠤᠯᠵᠤ ᠪᠠᠶᠢᠨ᠎ᠠ ᠃ ᠡᠨᠡ ᠨᠢ ᠦᠨᠳᠦᠰᠦᠲᠡᠨ ᠦ ᠰᠤᠷᠭᠠᠯ ᠬᠦᠮᠦᠵᠢᠯ ᠢ ᠳᠡᠭᠡᠭᠰᠢᠯᠡᠭᠦᠯᠬᠦ ᠳᠦ ᠴᠢᠬᠤᠯᠠ ᠠᠴᠠ ᠤᠯᠤᠰ ᠲᠥᠷᠦ ᠶᠢᠨ ᠪᠣᠳᠯᠣᠭ᠎ᠠ ᠶᠢ ᠬᠡᠷᠡᠭᠵᠢᠭᠦᠯᠬᠦ ᠃ ᠮᠣᠩᠭᠣᠯ ᠦᠨᠳᠦᠰᠦᠲᠡᠨ ᠦ ᠦᠯᠡᠮᠵᠢ ᠰᠣᠶᠣᠯ ᠢ ᠬᠠᠮᠠᠭᠠᠯᠠᠨ ᠬᠥᠭᠵᠢᠭᠦᠯᠬᠦ ᠶᠢᠨ ᠲᠥᠯᠦᠭᠡ ᠶᠡᠬᠡ ᠠᠵᠢᠯ ᠢ ᠶᠠᠪᠤᠭᠤᠯᠵᠤ ᠪᠠᠶᠢᠨ᠎ᠠ ᠃ ᠡᠨᠡ ᠨᠢ ᠦᠨᠳᠦᠰᠦᠲᠡᠨ ᠦ ᠰᠤᠷᠭᠠᠯ ᠬᠦᠮᠦᠵᠢᠯ ᠢ ᠳᠡᠭᠡᠭᠰᠢᠯᠡᠭᠦᠯᠬᠦ ᠳᠦ ᠴᠢᠬᠤᠯᠠ ᠠᠴᠠ ᠤᠯᠤᠰ ᠲᠥᠷᠦ ᠶᠢᠨ ᠪᠣᠳᠯᠣᠭ᠎ᠠ ᠶᠢ ᠬᠡᠷᠡᠭᠵᠢᠭᠦᠯᠬᠦ ᠃ ᠮᠣᠩᠭᠣᠯ ᠦᠨᠳᠦᠰᠦᠲᠡᠨ ᠦ ᠦᠯᠡᠮᠵᠢ ᠰᠣᠶᠣᠯ ᠢ ᠬᠠᠮᠠᠭᠠᠯᠠᠨ ᠬᠥᠭᠵᠢᠭᠦᠯᠬᠦ ᠶᠢᠨ ᠲᠥᠯᠦᠭᠡ ᠶᠡᠬᠡ ᠠᠵᠢᠯ ᠢ ᠶᠠᠪᠤᠭᠤᠯᠵᠤ ᠪᠠᠶᠢᠨ᠎ᠠ ᠃ ᠡᠨᠡ ᠨᠢ ᠦᠨᠳᠦᠰᠦᠲᠡᠨ ᠦ ᠰᠤᠷᠭᠠᠯ ᠬᠦᠮᠦᠵᠢᠯ ᠢ ᠳᠡᠭᠡᠭᠰᠢᠯᠡᠭᠦᠯᠬᠦ ᠳᠦ ᠴᠢᠬᠤᠯᠠ ᠠᠴᠠ ᠤᠯᠤᠰ ᠲᠥᠷᠦ ᠶᠢᠨ ᠪᠣᠳᠯᠣᠭ᠎ᠠ ᠶᠢ ᠬᠡᠷᠡᠭᠵᠢᠭᠦᠯᠬᠦ ᠃ ᠮᠣᠩᠭᠣᠯ ᠦᠨᠳᠦᠰᠦᠲᠡᠨ ᠦ ᠦᠯᠡᠮᠵᠢ ᠰᠣᠶᠣᠯ ᠢ ᠬᠠᠮᠠᠭᠠᠯᠠᠨ ᠬᠥᠭᠵᠢᠭᠦᠯᠬᠦ ᠶᠢᠨ ᠲᠥᠯᠦᠭᠡ ᠶᠡᠬᠡ ᠠᠵᠢᠯ ᠢ ᠶᠠᠪᠤᠭᠤᠯᠵᠤ ᠪᠠᠶᠢᠨ᠎ᠠ ᠃ ᠡᠨᠡ ᠨᠢ ᠦᠨᠳᠦᠰᠦᠲᠡᠨ ᠦ ᠰᠤᠷᠭᠠᠯ ᠬᠦᠮᠦᠵᠢᠯ ᠢ ᠳᠡᠭᠡᠭᠰᠢᠯᠡᠭᠦᠯᠬᠦ ᠳᠦ ᠴᠢᠬᠤᠯᠠ ᠠᠴᠠ ᠤᠯᠤᠰ ᠲᠥᠷᠦ ᠶᠢᠨ ᠪᠣᠳᠯᠣᠭ᠎ᠠ ᠶᠢ ᠬᠡᠷᠡᠭᠵᠢᠭᠦᠯᠬᠦ ᠃ ᠮᠣᠩᠭᠣᠯ ᠦᠨᠳᠦᠰᠦᠲᠡᠨ ᠦ ᠦᠯᠡᠮᠵᠢ ᠰᠣᠶᠣᠯ ᠢ ᠬᠠᠮᠠᠭᠠᠯᠠᠨ ᠬᠥᠭᠵᠢᠭᠦᠯᠬᠦ ᠶᠢᠨ ᠲᠥᠯᠦᠭᠡ ᠶᠡᠬᠡ ᠠᠵᠢᠯ ᠢ ᠶᠠᠪᠤᠭᠤᠯᠵᠤ ᠪᠠᠶᠢᠨ᠎ᠠ ᠃ ᠡᠨᠡ ᠨᠢ ᠦᠨᠳᠦᠰᠦᠲᠡᠨ ᠦ ᠰᠤᠷᠭᠠᠯ ᠬᠦᠮᠦᠵᠢᠯ ᠢ ᠳᠡᠭᠡᠭᠰᠢᠯᠡᠭᠦᠯᠬᠦ ᠳᠦ ᠴᠢᠬᠤᠯᠠ ᠠᠴᠠ ᠤᠯᠤᠰ ᠲᠥᠷᠦ ᠶᠢᠨ ᠪᠣᠳᠯᠣᠭ᠎ᠠ ᠶᠢ ᠬᠡᠷᠡᠭᠵᠢᠭᠦᠯᠬᠦ ᠃ ᠮᠣᠩᠭᠣᠯ ᠦᠨᠳᠦᠰᠦᠲᠡᠨ ᠦ ᠦᠯᠡᠮᠵᠢ ᠰᠣᠶᠣᠯ ᠢ ᠬᠠᠮᠠᠭᠠᠯᠠᠨ ᠬᠥᠭᠵᠢᠭᠦᠯᠬᠦ ᠶᠢᠨ ᠲᠥᠯᠦᠭᠡ ᠶᠡᠬᠡ ᠠᠵᠢᠯ ᠢ ᠶᠠᠪᠤᠭᠤᠯᠵᠤ ᠪᠠᠶᠢᠨ᠎ᠠ ᠃ ᠡᠨᠡ ᠨᠢ ᠦᠨᠳᠦᠰᠦᠲᠡᠨ ᠦ ᠰᠤᠷᠭᠠᠯ ᠬᠦᠮᠦᠵᠢᠯ ᠢ ᠳᠡᠭᠡᠭᠰᠢᠯᠡᠭᠦᠯᠬᠦ ᠳᠦ ᠴᠢᠬᠤᠯᠠ ᠠᠴᠠ ᠤᠯᠤᠰ ᠲᠥᠷᠦ ᠶᠢᠨ ᠪᠣᠳᠯᠣᠭ᠎ᠠ ᠶᠢ ᠬᠡᠷᠡᠭᠵᠢᠭᠦᠯᠬᠦ ᠃ ᠮᠣᠩᠭᠣᠯ ᠦᠨᠳᠦᠰᠦᠲᠡᠨ ᠦ ᠦᠯᠡᠮᠵᠢ ᠰᠣᠶᠣᠯ ᠢ ᠬᠠᠮᠠᠭᠠᠯᠠᠨ ᠬᠥᠭᠵᠢᠭᠦᠯᠬᠦ ᠶᠢᠨ ᠲᠥᠯᠦᠭᠡ ᠶᠡᠬᠡ ᠠᠵᠢᠯ ᠢ ᠶᠠᠪᠤᠭᠤᠯᠵᠤ ᠪᠠᠶᠢᠨ᠎ᠠ ᠃ ᠡᠨᠡ ᠨᠢ ᠦᠨᠳᠦᠰᠦᠲᠡᠨ ᠦ ᠰᠤᠷᠭᠠᠯ ᠬᠦᠮᠦᠵᠢᠯ ᠢ ᠳᠡᠭᠡᠭᠰᠢᠯᠡᠭᠦᠯᠬᠦ ᠳᠦ ᠴᠢᠬᠤᠯᠠ ᠠᠴᠠ ᠤᠯᠤᠰ ᠲᠥᠷᠦ ᠶᠢᠨ ᠪᠣᠳᠯᠣᠭ᠎ᠠ ᠶᠢ ᠬᠡᠷᠡᠭᠵᠢᠭᠦᠯᠬᠦ ᠃ ᠮᠣᠩᠭᠣᠯ ᠦᠨᠳᠦᠰᠦᠲᠡᠨ ᠦ ᠦᠯᠡᠮᠵᠢ ᠰᠣᠶᠣᠯ ᠢ ᠬᠠᠮᠠᠭᠠᠯᠠᠨ ᠬᠥᠭᠵᠢᠭᠦᠯᠬᠦ ᠶᠢᠨ ᠲᠥᠯᠦᠭᠡ ᠶᠡᠬᠡ ᠠᠵᠢᠯ ᠢ ᠶᠠᠪᠤᠭᠤᠯᠵᠤ ᠪᠠᠶᠢᠨ᠎ᠠ ᠃ ᠡᠨᠡ ᠨᠢ ᠦᠨᠳᠦᠰᠦᠲᠡᠨ ᠦ ᠰᠤᠷᠭᠠᠯ ᠬᠦᠮᠦᠵᠢᠯ ᠢ ᠳᠡᠭᠡᠭᠰᠢᠯᠡᠭᠦᠯᠬᠦ ᠳᠦ ᠴᠢᠬᠤᠯᠠ ᠠᠴᠠ ᠤᠯᠤᠰ ᠲᠥᠷᠦ ᠶᠢᠨ ᠪᠣᠳᠯᠣᠭ᠎ᠠ ᠶᠢ ᠬᠡᠷᠡᠭᠵᠢᠭᠦᠯᠬᠦ ᠃ ᠮᠣᠩᠭᠣᠯ ᠦᠨᠳᠦᠰᠦᠲᠡᠨ ᠦ ᠦᠯᠡᠮᠵᠢ ᠰᠣᠶᠣᠯ ᠢ ᠬᠠᠮᠠᠭᠠᠯᠠᠨ ᠬᠥᠭᠵᠢᠭᠦᠯᠬᠦ ᠶᠢᠨ ᠲᠥᠯᠦᠭᠡ ᠶᠡᠬᠡ ᠠᠵᠢᠯ ᠢ ᠶᠠᠪᠤᠭᠤᠯᠵᠤ ᠪᠠᠶᠢᠨ᠎ᠠ ᠃ ᠡᠨᠡ ᠨᠢ ᠦᠨᠳᠦᠰᠦᠲᠡᠨ ᠦ ᠰᠤᠷᠭᠠᠯ ᠬᠦᠮᠦᠵᠢᠯ ᠢ ᠳᠡᠭᠡᠭᠰᠢᠯᠡᠭᠦᠯᠬᠦ ᠳᠦ ᠴᠢᠬᠤᠯᠠ ᠠᠴᠠ ᠤᠯᠤᠰ ᠲᠥᠷᠦ ᠶᠢᠨ ᠪᠣᠳᠯᠣᠭ᠎ᠠ ᠶᠢ ᠬᠡᠷᠡᠭᠵᠢᠭᠦᠯᠬᠦ ᠃ ᠮᠣᠩᠭᠣᠯ ᠦᠨᠳᠦᠰᠦᠲᠡᠨ ᠦ ᠦᠯᠡᠮᠵᠢ ᠰᠣᠶᠣᠯ ᠢ ᠬᠠᠮᠠᠭᠠᠯᠠᠨ ᠬᠥᠭᠵᠢᠭᠦᠯᠬᠦ ᠶᠢᠨ ᠲᠥᠯᠦᠭᠡ ᠶᠡᠬᠡ ᠠᠵᠢᠯ ᠢ ᠶᠠᠪᠤᠭᠤᠯᠵᠤ ᠪᠠᠶᠢᠨ᠎ᠠ ᠃ ᠡᠨᠡ ᠨᠢ ᠦᠨᠳᠦᠰᠦᠲᠡᠨ ᠦ ᠰᠤᠷᠭᠠᠯ ᠬᠦᠮᠦᠵᠢᠯ ᠢ ᠳᠡᠭᠡᠭᠰᠢᠯᠡᠭᠦᠯᠬᠦ ᠳᠦ ᠴᠢᠬᠤᠯᠠ ᠠᠴᠠ ᠤᠯᠤᠰ ᠲᠥᠷᠦ ᠶᠢᠨ ᠪᠣᠳᠯᠣᠭ᠎ᠠ ᠶᠢ ᠬᠡᠷᠡᠭᠵᠢᠭᠦᠯᠬᠦ ᠃ ᠮᠣᠩᠭᠣᠯ ᠦᠨᠳᠦᠰᠦᠲᠡᠨ ᠦ ᠦᠯᠡᠮᠵᠢ ᠰᠣᠶᠣᠯ ᠢ ᠬᠠᠮᠠᠭᠠᠯᠠᠨ ᠬᠥᠭᠵᠢᠭᠦᠯᠬᠦ ᠶᠢᠨ ᠲᠥᠯᠦᠭᠡ ᠶᠡᠬᠡ ᠠᠵᠢᠯ ᠢ ᠶᠠᠪᠤᠭᠤᠯᠵᠤ ᠪᠠᠶᠢᠨ᠎ᠠ ᠃ ᠡᠨᠡ ᠨᠢ ᠦᠨᠳᠦᠰᠦᠲᠡᠨ ᠦ ᠰᠤᠷᠭᠠᠯ ᠬᠦᠮᠦᠵᠢᠯ ᠢ ᠳᠡᠭᠡᠭᠰᠢᠯᠡᠭᠦᠯᠬᠦ ᠳᠦ ᠴᠢᠬᠤᠯᠠ ᠠᠴᠠ ᠤᠯᠤᠰ ᠲᠥᠷᠦ ᠶᠢᠨ ᠪᠣᠳᠯᠣᠭ᠎ᠠ ᠶᠢ ᠬᠡᠷᠡᠭᠵᠢᠭᠦᠯᠬᠦ ᠃ ᠮᠣᠩᠭᠣᠯ ᠦᠨᠳᠦᠰᠦᠲᠡᠨ ᠦ ᠦᠯᠡᠮᠵᠢ ᠰᠣᠶᠣᠯ ᠢ ᠬᠠᠮᠠᠭᠠᠯᠠᠨ ᠬᠥᠭᠵᠢᠭᠦᠯᠬᠦ ᠶᠢᠨ ᠲᠥᠯᠦᠭᠡ ᠶᠡᠬᠡ ᠠᠵᠢᠯ ᠢ ᠶᠠᠪᠤᠭᠤᠯᠵᠤ ᠪᠠᠶᠢᠨ᠎ᠠ ᠃ ᠡᠨᠡ ᠨᠢ ᠦᠨᠳᠦᠰᠦᠲᠡᠨ ᠦ ᠰᠤᠷᠭᠠᠯ ᠬᠦᠮᠦᠵᠢᠯ ᠢ ᠳᠡᠭᠡᠭᠰᠢᠯᠡᠭᠦᠯᠬᠦ ᠳᠦ ᠴᠢᠬᠤᠯᠠ ᠠᠴᠠ ᠤᠯᠤᠰ ᠲᠥᠷᠦ ᠶᠢᠨ ᠪᠣᠳᠯᠣᠭ᠎ᠠ ᠶᠢ ᠬᠡᠷᠡᠭᠵᠢᠭᠦᠯᠬᠦ ᠃ ᠮᠣᠩᠭᠣᠯ ᠦᠨᠳᠦᠰᠦᠲᠡᠨ ᠦ ᠦᠯᠡᠮᠵᠢ ᠰᠣᠶᠣᠯ ᠢ ᠬᠠᠮᠠᠭᠠᠯᠠᠨ ᠬᠥᠭᠵᠢᠭᠦᠯᠬᠦ ᠶᠢᠨ ᠲᠥᠯᠦᠭᠡ ᠶᠡᠬᠡ ᠠᠵᠢᠯ ᠢ ᠶᠠᠪᠤᠭᠤᠯᠵᠤ ᠪᠠᠶᠢᠨ᠎ᠠ ᠃ ᠡᠨᠡ ᠨᠢ ᠦᠨᠳᠦᠰᠦᠲᠡᠨ ᠦ ᠰᠤᠷᠭᠠᠯ ᠬᠦᠮᠦᠵᠢᠯ ᠢ ᠳᠡᠭᠡᠭᠰᠢᠯᠡᠭᠦᠯᠬᠦ ᠳᠦ ᠴᠢᠬᠤᠯᠠ ᠠᠴᠠ ᠤᠯᠤᠰ ᠲᠥᠷᠦ ᠶᠢᠨ ᠪᠣᠳᠯᠣᠭ᠎ᠠ ᠶᠢ ᠬᠡᠷᠡᠭᠵᠢᠭᠦᠯᠬᠦ ᠃ ᠮᠣᠩᠭᠣᠯ ᠦᠨᠳᠦᠰᠦᠲᠡᠨ ᠦ ᠦᠯᠡᠮᠵᠢ ᠰᠣᠶᠣᠯ ᠢ ᠬᠠᠮᠠᠭᠠᠯᠠᠨ ᠬᠥᠭᠵᠢᠭᠦᠯᠬᠦ ᠶᠢᠨ ᠲᠥᠯᠦᠭᠡ ᠶᠡᠬᠡ ᠠᠵᠢᠯ ᠢ ᠶᠠᠪᠤᠭᠤᠯᠵᠤ ᠪᠠᠶᠢᠨ᠎ᠠ ᠃ ᠡᠨᠡ ᠨᠢ ᠦᠨᠳᠦᠰᠦᠲᠡᠨ ᠦ ᠰᠤᠷᠭᠠᠯ ᠬᠦᠮᠦᠵᠢᠯ ᠢ ᠳᠡᠭᠡᠭᠰᠢᠯᠡᠭᠦᠯᠬᠦ ᠳᠦ ᠴᠢᠬᠤᠯᠠ ᠠᠴᠠ ᠤᠯᠤᠰ ᠲᠥᠷᠦ ᠶᠢᠨ ᠪᠣᠳᠯᠣᠭ᠎ᠠ ᠶᠢ ᠬᠡᠷᠡᠭᠵᠢᠭᠦᠯᠬᠦ ᠃ ᠮᠣᠩᠭᠣᠯ ᠦᠨᠳᠦᠰᠦᠲᠡᠨ ᠦ ᠦᠯᠡᠮᠵᠢ ᠰᠣᠶᠣᠯ ᠢ ᠬᠠᠮᠠᠭᠠᠯᠠᠨ ᠬᠥᠭᠵᠢᠭᠦᠯᠬᠦ ᠶᠢᠨ ᠲᠥᠯᠦᠭᠡ ᠶᠡᠬᠡ ᠠᠵᠢᠯ ᠢ ᠶᠠᠪᠤᠭᠤᠯᠵᠤ ᠪᠠᠶᠢᠨ᠎ᠠ ᠃ ᠡᠨᠡ ᠨᠢ ᠦᠨᠳᠦᠰᠦᠲᠡᠨ ᠦ ᠰᠤᠷᠭᠠᠯ ᠬᠦᠮᠦᠵᠢᠯ ᠢ ᠳᠡᠭᠡᠭᠰᠢᠯᠡᠭᠦᠯᠬᠦ ᠳᠦ ᠴᠢᠬᠤᠯᠠ ᠠᠴᠠ ᠤᠯᠤᠰ ᠲᠥᠷᠦ ᠶᠢᠨ ᠪᠣᠳᠯᠣᠭ᠎ᠠ ᠶᠢ ᠬᠡᠷᠡᠭᠵᠢᠭᠦᠯᠬᠦ ᠃ ᠮᠣᠩᠭᠣᠯ ᠦᠨᠳᠦᠰᠦᠲᠡᠨ ᠦ ᠦᠯᠡᠮᠵᠢ ᠰᠣᠶᠣᠯ ᠢ ᠬᠠᠮᠠᠭᠠᠯᠠᠨ ᠬᠥᠭᠵᠢᠭᠦᠯᠬᠦ ᠶᠢᠨ ᠲᠥᠯᠦᠭᠡ ᠶᠡᠬᠡ ᠠᠵᠢᠯ ᠢ ᠶᠠᠪᠤᠭᠤᠯᠵᠤ ᠪᠠᠶᠢᠨ᠎ᠠ ᠃ ᠡᠨᠡ ᠨᠢ ᠦᠨᠳᠦᠰᠦᠲᠡᠨ ᠦ ᠰᠤᠷᠭᠠᠯ ᠬᠦᠮᠦᠵᠢᠯ ᠢ ᠳᠡᠭᠡᠭᠰᠢᠯᠡᠭᠦᠯᠬᠦ ᠳᠦ ᠴᠢᠬᠤᠯᠠ ᠠᠴᠠ ᠤᠯᠤᠰ ᠲᠥᠷᠦ ᠶᠢᠨ ᠪᠣᠳᠯᠣᠭ᠎ᠠ ᠶᠢ ᠬᠡᠷᠡᠭᠵᠢᠭᠦᠯᠬᠦ ᠃ ᠮᠣᠩᠭᠣᠯ ᠦᠨᠳᠦᠰᠦᠲᠡᠨ ᠦ ᠦᠯᠡᠮᠵᠢ ᠰᠣᠶᠣᠯ ᠢ ᠬᠠᠮᠠᠭᠠᠯᠠᠨ ᠬᠥᠭᠵᠢᠭᠦᠯᠬᠦ ᠶᠢᠨ ᠲᠥᠯᠦᠭᠡ ᠶᠡᠬᠡ ᠠᠵᠢᠯ ᠢ ᠶᠠᠪᠤᠭᠤᠯᠵᠤ ᠪᠠᠶᠢᠨ᠎ᠠ ᠃ ᠡᠨᠡ ᠨᠢ ᠦᠨᠳᠦᠰᠦᠲᠡᠨ ᠦ ᠰᠤᠷᠭᠠᠯ ᠬᠦᠮᠦᠵᠢᠯ ᠢ ᠳᠡᠭᠡᠭᠰᠢᠯᠡᠭᠦᠯᠬᠦ ᠳᠦ ᠴᠢᠬᠤᠯᠠ ᠠᠴᠠ ᠤᠯᠤᠰ ᠲᠥᠷᠦ ᠶᠢᠨ ᠪᠣᠳᠯᠣᠭ᠎ᠠ ᠶᠢ ᠬᠡᠷᠡᠭᠵᠢᠭᠦᠯᠬᠦ ᠃ ᠮᠣᠩᠭᠣᠯ ᠦᠨᠳᠦᠰᠦᠲᠡᠨ ᠦ ᠦᠯᠡᠮᠵᠢ ᠰᠣᠶᠣᠯ ᠢ ᠬᠠᠮᠠᠭᠠᠯᠠᠨ ᠬᠥᠭᠵᠢᠭᠦᠯᠬᠦ ᠶᠢᠨ ᠲᠥᠯᠦᠭᠡ ᠶᠡᠬᠡ ᠠᠵᠢᠯ ᠢ ᠶᠠᠪᠤᠭᠤᠯᠵᠤ ᠪᠠᠶᠢᠨ᠎ᠠ ᠃ ᠡᠨᠡ ᠨᠢ ᠦᠨᠳᠦᠰᠦᠲᠡᠨ ᠦ ᠰᠤᠷᠭᠠᠯ ᠬᠦᠮᠦᠵᠢᠯ ᠢ ᠳᠡᠭᠡᠭᠰᠢᠯᠡᠭᠦᠯᠬᠦ ᠳᠦ ᠴᠢᠬᠤᠯᠠ ᠠᠴᠠ ᠤᠯᠤᠰ ᠲᠥᠷᠦ ᠶᠢᠨ ᠪᠣᠳᠯᠣᠭ᠎ᠠ ᠶᠢ ᠬᠡᠷᠡᠭᠵᠢᠭᠦᠯᠬᠦ ᠃ ᠮᠣᠩᠭᠣᠯ ᠦᠨᠳᠦᠰᠦᠲᠡᠨ ᠦ ᠦᠯᠡᠮᠵᠢ ᠰᠣᠶᠣᠯ ᠢ ᠬᠠᠮᠠᠭᠠᠯᠠᠨ ᠬᠥᠭᠵᠢᠭᠦᠯᠬᠦ ᠶᠢᠨ ᠲᠥᠯᠦᠭᠡ ᠶᠡᠬᠡ ᠠᠵᠢᠯ ᠢ ᠶᠠᠪᠤᠭᠤᠯᠵᠤ ᠪᠠᠶᠢᠨ᠎ᠠ ᠃ ᠡᠨᠡ ᠨᠢ ᠦᠨᠳᠦᠰᠦᠲᠡᠨ ᠦ ᠰᠤᠷᠭᠠᠯ ᠬᠦᠮᠦᠵᠢᠯ ᠢ ᠳᠡᠭᠡᠭᠰᠢᠯᠡᠭᠦᠯᠬᠦ ᠳᠦ ᠴᠢᠬᠤᠯᠠ ᠠᠴᠠ ᠤᠯᠤᠰ ᠲᠥᠷᠦ ᠶᠢᠨ ᠪᠣᠳᠯᠣᠭ᠎ᠠ ᠶᠢ ᠬᠡᠷᠡᠭᠵᠢᠭᠦᠯᠬᠦ ᠃ ᠮᠣᠩᠭᠣᠯ ᠦᠨᠳᠦᠰᠦᠲᠡᠨ ᠦ ᠦᠯᠡᠮᠵᠢ ᠰᠣᠶᠣᠯ ᠢ ᠬᠠᠮᠠᠭᠠᠯᠠᠨ ᠬᠥᠭᠵᠢᠭᠦᠯᠬᠦ ᠶᠢᠨ ᠲᠥᠯᠦᠭᠡ ᠶᠡᠬᠡ ᠠᠵᠢᠯ ᠢ ᠶᠠᠪᠤᠭᠤᠯᠵᠤ ᠪᠠᠶᠢᠨ᠎ᠠ ᠃ ᠡᠨᠡ ᠨᠢ ᠦᠨᠳᠦᠰᠦᠲᠡᠨ ᠦ ᠰᠤᠷᠭᠠᠯ ᠬᠦᠮᠦᠵᠢᠯ ᠢ ᠳᠡᠭᠡᠭᠰᠢᠯᠡᠭᠦᠯᠬᠦ ᠳᠦ ᠴᠢᠬᠤᠯᠠ ᠠᠴᠠ ᠤᠯᠤᠰ ᠲᠥᠷᠦ ᠶᠢᠨ ᠪᠣᠳᠯᠣᠭ᠎ᠠ ᠶᠢ ᠬᠡᠷᠡᠭᠵᠢᠭᠦᠯᠬᠦ ᠃ ᠮᠣᠩᠭᠣᠯ ᠦᠨᠳᠦᠰᠦᠲᠡᠨ ᠦ ᠦᠯᠡᠮᠵᠢ ᠰᠣᠶᠣᠯ ᠢ ᠬᠠᠮᠠᠭᠠᠯᠠᠨ ᠬᠥᠭᠵᠢᠭᠦᠯᠬᠦ ᠶᠢᠨ ᠲᠥᠯᠦᠭᠡ ᠶᠡᠬᠡ ᠠᠵᠢᠯ ᠢ ᠶᠠᠪᠤᠭᠤᠯᠵᠤ ᠪᠠᠶᠢᠨ᠎ᠠ ᠃ ᠡᠨᠡ ᠨᠢ ᠦᠨᠳᠦᠰᠦᠲᠡᠨ ᠦ ᠰᠤᠷᠭᠠᠯ ᠬᠦᠮᠦᠵᠢᠯ ᠢ ᠳᠡᠭᠡᠭᠰᠢᠯᠡᠭᠦᠯᠬᠦ ᠳᠦ ᠴᠢᠬᠤᠯᠠ ᠠᠴᠠ ᠤᠯᠤᠰ ᠲᠥᠷᠦ ᠶᠢᠨ ᠪᠣᠳᠯᠣᠭ᠎ᠠ ᠶᠢ ᠬᠡᠷᠡᠭᠵᠢᠭᠦᠯᠬᠦ ᠃ ᠮᠣᠩᠭᠣᠯ ᠦᠨᠳᠦᠰᠦᠲᠡᠨ ᠦ ᠦᠯᠡᠮᠵᠢ ᠰᠣᠶᠣᠯ ᠢ ᠬᠠᠮᠠᠭᠠᠯᠠᠨ ᠬᠥᠭᠵᠢᠭᠦᠯᠬᠦ ᠶᠢᠨ ᠲᠥᠯᠦᠭᠡ ᠶᠡᠬᠡ ᠠᠵᠢᠯ ᠢ ᠶᠠᠪᠤᠭᠤᠯᠵᠤ ᠪᠠᠶᠢᠨ᠎ᠠ ᠃ ᠡᠨᠡ ᠨᠢ ᠦᠨᠳᠦᠰᠦᠲᠡᠨ ᠦ ᠰᠤᠷᠭᠠᠯ ᠬᠦᠮᠦᠵᠢᠯ ᠢ ᠳᠡᠭᠡᠭᠰᠢᠯᠡᠭᠦᠯᠬᠦ ᠳᠦ ᠴᠢᠬᠤᠯᠠ ᠠᠴᠠ ᠤᠯᠤᠰ ᠲᠥᠷᠦ ᠶᠢᠨ ᠪᠣᠳᠯᠣᠭ᠎ᠠ ᠶᠢ ᠬᠡᠷᠡᠭᠵᠢᠭᠦᠯᠬᠦ ᠃	ᠮᠣᠩᠭᠣᠯ ᠦᠨᠳᠦᠰᠦᠲᠡᠨ ᠦ ᠦᠯᠡᠮᠵᠢ ᠰᠣᠶᠣᠯ ᠢ ᠬᠠᠮᠠᠭᠠᠯᠠᠨ ᠬᠥᠭᠵᠢᠭᠦᠯᠬᠦ ᠶᠢᠨ ᠲᠥᠯᠦᠭᠡ ᠶᠡᠬᠡ ᠠᠵᠢᠯ ᠢ ᠶᠠᠪᠤᠭᠤᠯᠵᠤ ᠪᠠᠶᠢᠨ᠎ᠠ ᠃ ᠡᠨᠡ ᠨᠢ ᠦᠨᠳᠦᠰᠦᠲᠡᠨ ᠦ ᠰᠤᠷᠭᠠᠯ ᠬᠦᠮᠦᠵᠢᠯ ᠢ ᠳᠡᠭᠡᠭᠰᠢᠯᠡᠭᠦᠯᠬᠦ ᠳᠦ ᠴᠢᠬᠤᠯᠠ ᠠᠴᠠ ᠤᠯᠤᠰ ᠲᠥᠷᠦ ᠶᠢᠨ ᠪᠣᠳᠯᠣᠭ᠎ᠠ ᠶᠢ ᠬᠡᠷᠡᠭᠵᠢᠭᠦᠯᠬᠦ ᠃ ᠮᠣᠩᠭᠣᠯ ᠦᠨᠳᠦᠰᠦᠲᠡᠨ ᠦ ᠦᠯᠡᠮᠵᠢ ᠰᠣᠶᠣᠯ ᠢ ᠬᠠᠮᠠᠭᠠᠯᠠᠨ ᠬᠥᠭᠵᠢᠭᠦᠯᠬᠦ ᠶᠢᠨ ᠲᠥᠯᠦᠭᠡ ᠶᠡᠬᠡ ᠠᠵᠢᠯ ᠢ ᠶᠠᠪᠤᠭᠤᠯᠵᠤ ᠪᠠᠶᠢᠨ᠎ᠠ ᠃ ᠡᠨᠡ ᠨᠢ ᠦᠨᠳᠦᠰᠦᠲᠡᠨ ᠦ ᠰᠤᠷᠭᠠᠯ ᠬᠦᠮᠦᠵᠢᠯ ᠢ ᠳᠡᠭᠡᠭᠰᠢᠯᠡᠭᠦᠯᠬᠦ ᠳᠦ ᠴᠢᠬᠤᠯᠠ ᠠᠴᠠ ᠤᠯᠤᠰ ᠲᠥᠷᠦ ᠶᠢᠨ ᠪᠣᠳᠯᠣᠭ᠎ᠠ ᠶᠢ ᠬᠡᠷᠡᠭᠵᠢᠭᠦᠯᠬᠦ ᠃ ᠮᠣᠩᠭᠣᠯ ᠦᠨᠳᠦᠰᠦᠲᠡᠨ ᠦ ᠦᠯᠡᠮᠵᠢ ᠰᠣᠶᠣᠯ ᠢ ᠬᠠᠮᠠᠭᠠᠯᠠᠨ ᠬᠥᠭᠵᠢᠭᠦᠯᠬᠦ ᠶᠢᠨ ᠲᠥᠯᠦᠭᠡ ᠶᠡᠬᠡ ᠠᠵᠢᠯ ᠢ ᠶᠠᠪᠤᠭᠤᠯᠵᠤ ᠪᠠᠶᠢᠨ᠎ᠠ ᠃ ᠡᠨᠡ ᠨᠢ ᠦᠨᠳᠦᠰᠦᠲᠡᠨ ᠦ ᠰᠤᠷᠭᠠᠯ ᠬᠦᠮᠦᠵᠢᠯ ᠢ ᠳᠡᠭᠡᠭᠰᠢᠯᠡᠭᠦᠯᠬᠦ ᠳᠦ ᠴᠢᠬᠤᠯᠠ ᠠᠴᠠ ᠤᠯᠤᠰ ᠲᠥᠷᠦ ᠶᠢᠨ ᠪᠣᠳᠯᠣᠭ᠎ᠠ ᠶᠢ ᠬᠡᠷᠡᠭᠵᠢᠭᠦᠯᠬᠦ ᠃ ᠮᠣᠩᠭᠣᠯ ᠦᠨᠳᠦᠰᠦᠲᠡᠨ ᠦ ᠦᠯᠡᠮᠵᠢ ᠰᠣᠶᠣᠯ ᠢ ᠬᠠᠮᠠᠭᠠᠯᠠᠨ ᠬᠥᠭᠵᠢᠭᠦᠯᠬᠦ ᠶᠢᠨ ᠲᠥᠯᠦᠭᠡ ᠶᠡᠬᠡ ᠠᠵᠢᠯ ᠢ ᠶᠠᠪᠤᠭᠤᠯᠵᠤ ᠪᠠᠶᠢᠨ᠎ᠠ ᠃ ᠡᠨᠡ ᠨᠢ ᠦᠨᠳᠦᠰᠦᠲᠡᠨ ᠦ ᠰᠤᠷᠭᠠᠯ ᠬᠦᠮᠦᠵᠢᠯ ᠢ ᠳᠡᠭᠡᠭᠰᠢᠯᠡᠭᠦᠯᠬᠦ ᠳᠦ ᠴᠢᠬᠤᠯᠠ ᠠᠴᠠ ᠤᠯᠤᠰ ᠲᠥᠷᠦ ᠶᠢᠨ ᠪᠣᠳᠯᠣᠭ᠎ᠠ ᠶᠢ ᠬᠡᠷᠡᠭᠵᠢᠭᠦᠯᠬᠦ ᠃ ᠮᠣᠩᠭᠣᠯ ᠦᠨᠳᠦᠰᠦᠲᠡᠨ ᠦ ᠦᠯᠡᠮᠵᠢ ᠰᠣᠶᠣᠯ ᠢ ᠬᠠᠮᠠᠭᠠᠯᠠᠨ ᠬᠥᠭᠵᠢᠭᠦᠯᠬᠦ ᠶᠢᠨ ᠲᠥᠯᠦᠭᠡ ᠶᠡᠬᠡ ᠠᠵᠢᠯ ᠢ ᠶᠠᠪᠤᠭᠤᠯᠵᠤ ᠪᠠᠶᠢᠨ᠎ᠠ ᠃ ᠡᠨᠡ ᠨᠢ ᠦᠨᠳᠦᠰᠦᠲᠡᠨ ᠦ ᠰᠤᠷᠭᠠᠯ ᠬᠦᠮᠦᠵᠢᠯ ᠢ ᠳᠡᠭᠡᠭᠰᠢᠯᠡᠭᠦᠯᠬᠦ ᠳᠦ ᠴᠢᠬᠤᠯᠠ ᠠᠴᠠ ᠤᠯᠤᠰ ᠲᠥᠷᠦ ᠶᠢᠨ ᠪᠣᠳᠯᠣᠭ᠎ᠠ ᠶᠢ ᠬᠡᠷᠡᠭᠵᠢᠭᠦᠯᠬᠦ ᠃ ᠮᠣᠩᠭᠣᠯ ᠦᠨᠳᠦᠰᠦᠲᠡᠨ ᠦ ᠦᠯᠡᠮᠵᠢ ᠰᠣᠶᠣᠯ ᠢ ᠬᠠᠮᠠᠭᠠᠯᠠᠨ ᠬᠥᠭᠵᠢᠭᠦᠯᠬᠦ ᠶᠢᠨ ᠲᠥᠯᠦᠭᠡ ᠶᠡᠬᠡ ᠠᠵᠢᠯ ᠢ ᠶᠠᠪᠤᠭᠤᠯᠵᠤ ᠪᠠᠶᠢᠨ᠎ᠠ ᠃ ᠡᠨᠡ ᠨᠢ ᠦᠨᠳᠦᠰᠦᠲᠡᠨ ᠦ ᠰᠤᠷᠭᠠᠯ ᠬᠦᠮᠦᠵᠢᠯ ᠢ ᠳᠡᠭᠡᠭᠰᠢᠯᠡᠭᠦᠯᠬᠦ ᠳᠦ ᠴᠢᠬᠤᠯᠠ ᠠᠴᠠ ᠤᠯᠤᠰ ᠲᠥᠷᠦ ᠶᠢᠨ ᠪᠣᠳᠯᠣᠭ᠎ᠠ ᠶᠢ ᠬᠡᠷᠡᠭᠵᠢᠭᠦᠯᠬᠦ ᠃ ᠮᠣᠩᠭᠣᠯ ᠦᠨᠳᠦᠰᠦᠲᠡᠨ ᠦ ᠦᠯᠡᠮᠵᠢ ᠰᠣᠶᠣᠯ ᠢ ᠬᠠᠮᠠᠭᠠᠯᠠᠨ ᠬᠥᠭᠵᠢᠭᠦᠯᠬᠦ ᠶᠢᠨ ᠲᠥᠯᠦᠭᠡ ᠶᠡᠬᠡ ᠠᠵᠢᠯ ᠢ ᠶᠠᠪᠤᠭᠤᠯᠵᠤ ᠪᠠᠶᠢᠨ᠎ᠠ ᠃ ᠡᠨᠡ ᠨᠢ ᠦᠨᠳᠦᠰᠦᠲᠡᠨ ᠦ ᠰᠤᠷᠭᠠᠯ ᠬᠦᠮᠦᠵᠢᠯ ᠢ ᠳᠡᠭᠡᠭᠰᠢᠯᠡᠭᠦᠯᠬᠦ ᠳᠦ ᠴᠢᠬᠤᠯᠠ ᠠᠴᠠ ᠤᠯᠤᠰ ᠲᠥᠷᠦ ᠶᠢᠨ ᠪᠣᠳᠯᠣᠭ᠎ᠠ ᠶᠢ ᠬᠡᠷᠡᠭᠵᠢᠭᠦᠯᠬᠦ ᠃ ᠮᠣᠩᠭᠣᠯ ᠦᠨᠳᠦᠰᠦᠲᠡᠨ ᠦ ᠦᠯᠡᠮᠵᠢ ᠰᠣᠶᠣᠯ ᠢ ᠬᠠᠮᠠᠭᠠᠯᠠᠨ ᠬᠥᠭᠵᠢᠭᠦᠯᠬᠦ ᠶᠢᠨ ᠲᠥᠯᠦᠭᠡ ᠶᠡᠬᠡ ᠠᠵᠢᠯ ᠢ ᠶᠠᠪᠤᠭᠤᠯᠵᠤ ᠪᠠᠶᠢᠨ᠎ᠠ ᠃ ᠡᠨᠡ ᠨᠢ ᠦᠨᠳᠦᠰᠦᠲᠡᠨ ᠦ ᠰᠤᠷᠭᠠᠯ ᠬᠦᠮᠦᠵᠢᠯ ᠢ ᠳᠡᠭᠡᠭᠰᠢᠯᠡᠭᠦᠯᠬᠦ ᠳᠦ ᠴᠢᠬᠤᠯᠠ ᠠᠴᠠ ᠤᠯᠤᠰ ᠲᠥᠷᠦ ᠶᠢᠨ ᠪᠣᠳᠯᠣᠭ᠎ᠠ ᠶᠢ ᠬᠡᠷᠡᠭᠵᠢᠭᠦᠯᠬᠦ ᠃ ᠮᠣᠩᠭᠣᠯ ᠦᠨᠳᠦᠰᠦᠲᠡᠨ ᠦ ᠦᠯᠡᠮᠵᠢ ᠰᠣᠶᠣᠯ ᠢ ᠬᠠᠮᠠᠭᠠᠯᠠᠨ ᠬᠥᠭᠵᠢᠭᠦᠯᠬᠦ ᠶᠢᠨ ᠲᠥᠯᠦᠭᠡ ᠶᠡᠬᠡ ᠠᠵᠢᠯ ᠢ ᠶᠠᠪᠤᠭᠤᠯᠵᠤ ᠪᠠᠶᠢᠨ᠎ᠠ ᠃ ᠡᠨᠡ ᠨᠢ ᠦᠨᠳᠦᠰᠦᠲᠡᠨ ᠦ ᠰᠤᠷᠭᠠᠯ ᠬᠦᠮᠦᠵᠢᠯ ᠢ ᠳᠡᠭᠡᠭᠰᠢᠯᠡᠭᠦᠯᠬᠦ ᠳᠦ ᠴᠢᠬᠤᠯᠠ ᠠᠴᠠ ᠤᠯᠤᠰ ᠲᠥᠷᠦ ᠶᠢᠨ ᠪᠣᠳᠯᠣᠭ᠎ᠠ ᠶᠢ ᠬᠡᠷᠡᠭᠵᠢᠭᠦᠯᠬᠦ ᠃ ᠮᠣᠩᠭᠣᠯ ᠦᠨᠳᠦᠰᠦᠲᠡᠨ ᠦ ᠦᠯᠡᠮᠵᠢ ᠰᠣᠶᠣᠯ ᠢ ᠬᠠᠮᠠᠭᠠᠯᠠᠨ ᠬᠥᠭᠵᠢᠭᠦᠯᠬᠦ ᠶᠢᠨ ᠲᠥᠯᠦᠭᠡ ᠶᠡᠬᠡ ᠠᠵᠢᠯ ᠢ ᠶᠠᠪᠤᠭᠤᠯᠵᠤ ᠪᠠᠶᠢᠨ᠎ᠠ ᠃ ᠡᠨᠡ ᠨᠢ ᠦᠨᠳᠦᠰᠦᠲᠡᠨ ᠦ ᠰᠤᠷᠭᠠᠯ ᠬᠦᠮᠦᠵᠢᠯ ᠢ ᠳᠡᠭᠡᠭᠰᠢᠯᠡᠭᠦᠯᠬᠦ ᠳᠦ ᠴᠢᠬᠤᠯᠠ ᠠᠴᠠ ᠤᠯᠤᠰ ᠲᠥᠷᠦ ᠶᠢᠨ ᠪᠣᠳᠯᠣᠭ᠎ᠠ ᠶᠢ ᠬᠡᠷᠡᠭᠵᠢᠭᠦᠯᠬᠦ ᠃ ᠮᠣᠩᠭᠣᠯ ᠦᠨᠳᠦᠰᠦᠲᠡᠨ ᠦ ᠦᠯᠡᠮᠵᠢ ᠰᠣᠶᠣᠯ ᠢ ᠬᠠᠮᠠᠭᠠᠯᠠᠨ ᠬᠥᠭᠵᠢᠭᠦᠯᠬᠦ ᠶᠢᠨ ᠲᠥᠯᠦᠭᠡ ᠶᠡᠬᠡ ᠠᠵᠢᠯ ᠢ ᠶᠠᠪᠤᠭᠤᠯᠵᠤ ᠪᠠᠶᠢᠨ᠎ᠠ ᠃ ᠡᠨᠡ ᠨᠢ ᠦᠨᠳᠦᠰᠦᠲᠡᠨ ᠦ ᠰᠤᠷᠭᠠᠯ ᠬᠦᠮᠦᠵᠢᠯ ᠢ ᠳᠡᠭᠡᠭᠰᠢᠯᠡᠭᠦᠯᠬᠦ ᠳᠦ ᠴᠢᠬᠤᠯᠠ ᠠᠴᠠ ᠤᠯᠤᠰ ᠲᠥᠷᠦ ᠶᠢᠨ ᠪᠣᠳᠯᠣᠭ᠎ᠠ ᠶᠢ ᠬᠡᠷᠡᠭᠵᠢᠭᠦᠯᠬᠦ ᠃ ᠮᠣᠩᠭᠣᠯ ᠦᠨᠳᠦᠰᠦᠲᠡᠨ ᠦ ᠦᠯᠡᠮᠵᠢ ᠰᠣᠶᠣᠯ ᠢ ᠬᠠᠮᠠᠭᠠᠯᠠᠨ ᠬᠥᠭᠵᠢᠭᠦᠯᠬᠦ ᠶᠢᠨ ᠲᠥᠯᠦᠭᠡ ᠶᠡᠬᠡ ᠠᠵᠢᠯ ᠢ ᠶᠠᠪᠤᠭᠤᠯᠵᠤ ᠪᠠᠶᠢᠨ᠎ᠠ ᠃ ᠡᠨᠡ ᠨᠢ ᠦᠨᠳᠦᠰᠦᠲᠡᠨ ᠦ ᠰᠤᠷᠭᠠᠯ ᠬᠦᠮᠦᠵᠢᠯ ᠢ ᠳᠡᠭᠡᠭᠰᠢᠯᠡᠭᠦᠯᠬᠦ ᠳᠦ ᠴᠢᠬᠤᠯᠠ ᠠᠴᠠ ᠤᠯᠤᠰ ᠲᠥᠷᠦ ᠶᠢᠨ ᠪᠣᠳᠯᠣᠭ᠎ᠠ ᠶᠢ ᠬᠡᠷᠡᠭᠵᠢᠭᠦᠯᠬᠦ ᠃ ᠮᠣᠩᠭᠣᠯ ᠦᠨᠳᠦᠰᠦᠲᠡᠨ ᠦ ᠦᠯᠡᠮᠵᠢ ᠰᠣᠶᠣᠯ ᠢ ᠬᠠᠮᠠᠭᠠᠯᠠᠨ ᠬᠥᠭᠵᠢᠭᠦᠯᠬᠦ ᠶᠢᠨ ᠲᠥᠯᠦᠭᠡ ᠶᠡᠬᠡ ᠠᠵᠢᠯ ᠢ ᠶᠠᠪᠤᠭᠤᠯᠵᠤ ᠪᠠᠶᠢᠨ᠎ᠠ ᠃ ᠡᠨᠡ ᠨᠢ ᠦᠨᠳᠦᠰᠦᠲᠡᠨ ᠦ ᠰᠤᠷᠭᠠᠯ ᠬᠦᠮᠦᠵᠢᠯ ᠢ ᠳᠡᠭᠡᠭᠰᠢᠯᠡᠭᠦᠯᠬᠦ ᠳᠦ ᠴᠢᠬᠤᠯᠠ ᠠᠴᠠ ᠤᠯᠤᠰ ᠲᠥᠷᠦ ᠶᠢᠨ ᠪᠣᠳᠯᠣᠭ᠎ᠠ ᠶᠢ ᠬᠡᠷᠡᠭᠵᠢᠭᠦᠯᠬᠦ ᠃ ᠮᠣᠩᠭᠣᠯ ᠦᠨᠳᠦᠰᠦᠲᠡᠨ ᠦ ᠦᠯᠡᠮᠵᠢ ᠰᠣᠶᠣᠯ ᠢ ᠬᠠᠮᠠᠭᠠᠯᠠᠨ ᠬᠥᠭᠵᠢᠭᠦᠯᠬᠦ ᠶᠢᠨ ᠲᠥᠯᠦᠭᠡ ᠶᠡᠬᠡ ᠠᠵᠢᠯ ᠢ ᠶᠠᠪᠤᠭᠤᠯᠵᠤ ᠪᠠᠶᠢᠨ᠎ᠠ ᠃ ᠡᠨᠡ ᠨᠢ ᠦᠨᠳᠦᠰᠦᠲᠡᠨ ᠦ ᠰᠤᠷᠭᠠᠯ ᠬᠦᠮᠦᠵᠢᠯ ᠢ ᠳᠡᠭᠡᠭᠰᠢᠯᠡᠭᠦᠯᠬᠦ ᠳᠦ ᠴᠢᠬᠤᠯᠠ ᠠᠴᠠ ᠤᠯᠤᠰ ᠲᠥᠷᠦ ᠶᠢᠨ ᠪᠣᠳᠯᠣᠭ᠎ᠠ ᠶᠢ ᠬᠡᠷᠡᠭᠵᠢᠭᠦᠯᠬᠦ ᠃ ᠮᠣᠩᠭᠣᠯ ᠦᠨᠳᠦᠰᠦᠲᠡᠨ ᠦ ᠦᠯᠡᠮᠵᠢ ᠰᠣᠶᠣᠯ ᠢ ᠬᠠᠮᠠᠭᠠᠯᠠᠨ ᠬᠥᠭᠵᠢᠭᠦᠯᠬᠦ ᠶᠢᠨ ᠲᠥᠯᠦᠭᠡ ᠶᠡᠬᠡ ᠠᠵᠢᠯ ᠢ ᠶᠠᠪᠤᠭᠤᠯᠵᠤ ᠪᠠᠶᠢᠨ᠎ᠠ ᠃ ᠡᠨᠡ ᠨᠢ ᠦᠨᠳᠦᠰᠦᠲᠡᠨ ᠦ ᠰᠤᠷᠭᠠᠯ ᠬᠦᠮᠦᠵᠢᠯ ᠢ ᠳᠡᠭᠡᠭᠰᠢᠯᠡᠭᠦᠯᠬᠦ ᠳᠦ ᠴᠢᠬᠤᠯᠠ ᠠᠴᠠ ᠤᠯᠤᠰ ᠲᠥᠷᠦ ᠶᠢᠨ ᠪᠣᠳᠯᠣᠭ᠎ᠠ ᠶᠢ ᠬᠡᠷᠡᠭᠵᠢᠭᠦᠯᠬᠦ ᠃ ᠮᠣᠩᠭᠣᠯ ᠦᠨᠳᠦᠰᠦᠲᠡᠨ ᠦ ᠦᠯᠡᠮᠵᠢ ᠰᠣᠶᠣᠯ ᠢ ᠬᠠᠮᠠᠭᠠᠯᠠᠨ ᠬᠥᠭᠵᠢᠭᠦᠯᠬᠦ ᠶᠢᠨ ᠲᠥᠯᠦᠭᠡ ᠶᠡᠬᠡ ᠠᠵᠢᠯ ᠢ ᠶᠠᠪᠤᠭᠤᠯᠵᠤ ᠪᠠᠶᠢᠨ᠎ᠠ ᠃ ᠡᠨᠡ ᠨᠢ ᠦᠨᠳᠦᠰᠦᠲᠡᠨ ᠦ ᠰᠤᠷᠭᠠᠯ ᠬᠦᠮᠦᠵᠢᠯ ᠢ ᠳᠡᠭᠡᠭᠰᠢᠯᠡᠭᠦᠯᠬᠦ ᠳᠦ ᠴᠢᠬᠤᠯᠠ ᠠᠴᠠ ᠤᠯᠤᠰ ᠲᠥᠷᠦ ᠶᠢᠨ ᠪᠣᠳᠯᠣᠭ᠎ᠠ ᠶᠢ ᠬᠡᠷᠡᠭᠵᠢᠭᠦᠯᠬᠦ ᠃ ᠮᠣᠩᠭᠣᠯ ᠦᠨᠳᠦᠰᠦᠲᠡᠨ ᠦ ᠦᠯᠡᠮᠵᠢ ᠰᠣᠶᠣᠯ ᠢ ᠬᠠᠮᠠᠭᠠᠯᠠᠨ ᠬᠥᠭᠵᠢᠭᠦᠯᠬᠦ ᠶᠢᠨ ᠲᠥᠯᠦᠭᠡ ᠶᠡᠬᠡ ᠠᠵᠢᠯ ᠢ ᠶᠠᠪᠤᠭᠤᠯᠵᠤ ᠪᠠᠶᠢᠨ᠎ᠠ ᠃ ᠡᠨᠡ ᠨᠢ ᠦᠨᠳᠦᠰᠦᠲᠡᠨ ᠦ ᠰᠤᠷᠭᠠᠯ ᠬᠦᠮᠦᠵᠢᠯ ᠢ ᠳᠡᠭᠡᠭᠰᠢᠯᠡᠭᠦᠯᠬᠦ ᠳᠦ ᠴᠢᠬᠤᠯᠠ ᠠᠴᠠ ᠤᠯᠤᠰ ᠲᠥᠷᠦ ᠶᠢᠨ ᠪᠣᠳᠯᠣᠭ᠎ᠠ ᠶᠢ ᠬᠡᠷᠡᠭᠵᠢᠭᠦᠯᠬᠦ ᠃ ᠮᠣᠩᠭᠣᠯ ᠦᠨᠳᠦᠰᠦᠲᠡᠨ ᠦ ᠦᠯᠡᠮᠵᠢ ᠰᠣᠶᠣᠯ ᠢ ᠬᠠᠮᠠᠭᠠᠯᠠᠨ ᠬᠥᠭᠵᠢᠭᠦᠯᠬᠦ ᠶᠢᠨ ᠲᠥᠯᠦᠭᠡ ᠶᠡᠬᠡ ᠠᠵᠢᠯ ᠢ ᠶᠠᠪᠤᠭᠤᠯᠵᠤ ᠪᠠᠶᠢᠨ᠎ᠠ ᠃ ᠡᠨᠡ ᠨᠢ ᠦᠨᠳᠦᠰᠦᠲᠡᠨ ᠦ ᠰᠤᠷᠭᠠᠯ ᠬᠦᠮᠦᠵᠢᠯ ᠢ ᠳᠡᠭᠡᠭᠰᠢᠯᠡᠭᠦᠯᠬᠦ ᠳᠦ ᠴᠢᠬᠤᠯᠠ ᠠᠴᠠ ᠤᠯᠤᠰ ᠲᠥᠷᠦ ᠶᠢᠨ ᠪᠣᠳᠯᠣᠭ᠎ᠠ ᠶᠢ ᠬᠡᠷᠡᠭᠵᠢᠭᠦᠯᠬᠦ ᠃ ᠮᠣᠩᠭᠣᠯ ᠦᠨᠳᠦᠰᠦᠲᠡᠨ ᠦ ᠦᠯᠡᠮᠵᠢ ᠰᠣᠶᠣᠯ ᠢ ᠬᠠᠮᠠᠭᠠᠯᠠᠨ ᠬᠥᠭᠵᠢᠭᠦᠯᠬᠦ ᠶᠢᠨ ᠲᠥᠯᠦᠭᠡ ᠶᠡᠬᠡ ᠠᠵᠢᠯ ᠢ ᠶᠠᠪᠤᠭᠤᠯᠵᠤ ᠪᠠᠶᠢᠨ᠎ᠠ ᠃ ᠡᠨᠡ ᠨᠢ ᠦᠨᠳᠦᠰᠦᠲᠡᠨ ᠦ ᠰᠤᠷᠭᠠᠯ ᠬᠦᠮᠦᠵᠢᠯ ᠢ ᠳᠡᠭᠡᠭᠰᠢᠯᠡᠭᠦᠯᠬᠦ ᠳᠦ ᠴᠢᠬᠤᠯᠠ ᠠᠴᠠ ᠤᠯᠤᠰ ᠲᠥᠷᠦ ᠶᠢᠨ ᠪᠣᠳᠯᠣᠭ᠎ᠠ ᠶᠢ ᠬᠡᠷᠡᠭᠵᠢᠭᠦᠯᠬᠦ ᠃ ᠮᠣᠩᠭᠣᠯ ᠦᠨᠳᠦᠰᠦᠲᠡᠨ ᠦ ᠦᠯᠡᠮᠵᠢ ᠰᠣᠶᠣᠯ ᠢ ᠬᠠᠮᠠᠭᠠᠯᠠᠨ ᠬᠥᠭᠵᠢᠭᠦᠯᠬᠦ ᠶᠢᠨ ᠲᠥᠯᠦᠭᠡ ᠶᠡᠬᠡ ᠠᠵᠢᠯ ᠢ ᠶᠠᠪᠤᠭᠤᠯᠵᠤ ᠪᠠᠶᠢᠨ᠎ᠠ ᠃ ᠡᠨᠡ ᠨᠢ ᠦᠨᠳᠦᠰᠦᠲᠡᠨ ᠦ ᠰᠤᠷᠭᠠᠯ ᠬᠦᠮᠦᠵᠢᠯ ᠢ ᠳᠡᠭᠡᠭᠰᠢᠯᠡᠭᠦᠯᠬᠦ ᠳᠦ ᠴᠢᠬᠤᠯᠠ ᠠᠴᠠ ᠤᠯᠤᠰ ᠲᠥᠷᠦ ᠶᠢᠨ ᠪᠣᠳᠯᠣᠭ᠎ᠠ ᠶᠢ ᠬᠡᠷᠡᠭᠵᠢᠭᠦᠯᠬᠦ ᠃ ᠮᠣᠩᠭᠣᠯ ᠦᠨᠳᠦᠰᠦᠲᠡᠨ ᠦ ᠦᠯᠡᠮᠵᠢ ᠰᠣᠶᠣᠯ ᠢ ᠬᠠᠮᠠᠭᠠᠯᠠᠨ ᠬᠥᠭᠵᠢᠭᠦᠯᠬᠦ ᠶᠢᠨ ᠲᠥᠯᠦᠭᠡ ᠶᠡᠬᠡ ᠠᠵᠢᠯ ᠢ ᠶᠠᠪᠤᠭᠤᠯᠵᠤ ᠪᠠᠶᠢᠨ᠎ᠠ ᠃ ᠡᠨᠡ ᠨᠢ ᠦᠨᠳᠦᠰᠦᠲᠡᠨ ᠦ ᠰᠤᠷᠭᠠᠯ ᠬᠦᠮᠦᠵᠢᠯ ᠢ ᠳᠡᠭᠡᠭᠰᠢᠯᠡᠭᠦᠯᠬᠦ ᠳᠦ ᠴᠢᠬᠤᠯᠠ ᠠᠴᠠ ᠤᠯᠤᠰ ᠲᠥᠷᠦ ᠶᠢᠨ ᠪᠣᠳᠯᠣᠭ᠎ᠠ ᠶᠢ ᠬᠡᠷᠡᠭᠵᠢᠭᠦᠯᠬᠦ ᠃ ᠮᠣᠩᠭᠣᠯ ᠦᠨᠳᠦᠰᠦᠲᠡᠨ ᠦ ᠦᠯᠡᠮᠵᠢ ᠰᠣᠶᠣᠯ ᠢ ᠬᠠᠮᠠᠭᠠᠯᠠᠨ ᠬᠥᠭᠵᠢᠭᠦᠯᠬᠦ ᠶᠢᠨ ᠲᠥᠯᠦᠭᠡ ᠶᠡᠬᠡ ᠠᠵᠢᠯ ᠢ ᠶᠠᠪᠤᠭᠤᠯᠵᠤ ᠪᠠᠶᠢᠨ᠎ᠠ ᠃ ᠡᠨᠡ ᠨᠢ ᠦᠨᠳᠦᠰᠦᠲᠡᠨ ᠦ ᠰᠤᠷᠭᠠᠯ ᠬᠦᠮᠦᠵᠢᠯ ᠢ ᠳᠡᠭᠡᠭᠰᠢᠯᠡᠭᠦᠯᠬᠦ ᠳᠦ ᠴᠢᠬᠤᠯᠠ ᠠᠴᠠ ᠤᠯᠤᠰ ᠲᠥᠷᠦ ᠶᠢᠨ ᠪᠣᠳᠯᠣᠭ᠎ᠠ ᠶᠢ ᠬᠡᠷᠡᠭᠵᠢᠭᠦᠯᠬᠦ ᠃ ᠮᠣᠩᠭᠣᠯ ᠦᠨᠳᠦᠰᠦᠲᠡᠨ ᠦ ᠦᠯᠡᠮᠵᠢ ᠰᠣᠶᠣᠯ ᠢ ᠬᠠᠮᠠᠭᠠᠯᠠᠨ ᠬᠥᠭᠵᠢᠭᠦᠯᠬᠦ ᠶᠢᠨ ᠲᠥᠯᠦᠭᠡ ᠶᠡᠬᠡ ᠠᠵᠢᠯ ᠢ ᠶᠠᠪᠤᠭᠤᠯᠵᠤ ᠪᠠᠶᠢᠨ᠎ᠠ ᠃ ᠡᠨᠡ ᠨᠢ ᠦᠨᠳᠦᠰᠦᠲᠡᠨ ᠦ ᠰᠤᠷᠭᠠᠯ ᠬᠦᠮᠦᠵᠢᠯ ᠢ ᠳᠡᠭᠡᠭᠰᠢᠯᠡᠭᠦᠯᠬᠦ ᠳᠦ ᠴᠢᠬᠤᠯᠠ ᠠᠴᠠ ᠤᠯᠤᠰ ᠲᠥᠷᠦ ᠶᠢᠨ ᠪᠣᠳᠯᠣᠭ᠎ᠠ ᠶᠢ ᠬᠡᠷᠡᠭᠵᠢᠭᠦᠯᠬᠦ ᠃ ᠮᠣᠩᠭᠣᠯ ᠦᠨᠳᠦᠰᠦᠲᠡᠨ ᠦ ᠦᠯᠡᠮᠵᠢ ᠰᠣᠶᠣᠯ ᠢ ᠬᠠᠮᠠᠭᠠᠯᠠᠨ ᠬᠥᠭᠵᠢᠭᠦᠯᠬᠦ ᠶᠢᠨ ᠲᠥᠯᠦᠭᠡ ᠶᠡᠬᠡ ᠠᠵᠢᠯ ᠢ ᠶᠠᠪᠤᠭᠤᠯᠵᠤ ᠪᠠᠶᠢᠨ᠎ᠠ ᠃ ᠡᠨᠡ ᠨᠢ ᠦᠨᠳᠦᠰᠦᠲᠡᠨ ᠦ ᠰᠤᠷᠭᠠᠯ ᠬᠦᠮᠦᠵᠢᠯ ᠢ ᠳᠡᠭᠡᠭᠰᠢᠯᠡᠭᠦᠯᠬᠦ ᠳᠦ ᠴᠢᠬᠤᠯᠠ ᠠᠴᠠ ᠤᠯᠤᠰ ᠲᠥᠷᠦ ᠶᠢᠨ ᠪᠣᠳᠯᠣᠭ᠎ᠠ ᠶᠢ ᠬᠡᠷᠡᠭᠵᠢᠭᠦᠯᠬᠦ ᠃ ᠪᠠᠶᠢᠭᠠᠯᠢ ᠣᠷᠴᠢᠨ ᠤ ᠬᠠᠮᠠᠭᠠᠯᠠᠯᠲᠠ ᠶᠢᠨ ᠠᠵᠢᠯ ᠪᠠᠶᠢᠭᠠᠯᠢ ᠣᠷᠴᠢᠨ ᠤ ᠬᠠᠮᠠᠭᠠᠯᠠᠯᠲᠠ ᠶᠢᠨ ᠠᠵᠢᠯ ᠪᠠᠶᠢᠭᠠᠯᠢ ᠣᠷᠴᠢᠨ ᠤ ᠬᠠᠮᠠᠭᠠᠯᠠᠯᠲᠠ ᠶᠢᠨ ᠠᠵᠢᠯ ᠪᠠᠶᠢᠭᠠᠯᠢ ᠣᠷᠴᠢᠨ ᠤ ᠬᠠᠮᠠᠭᠠᠯᠠᠯᠲᠠ ᠶᠢᠨ ᠠᠵᠢᠯ ᠪᠠᠶᠢᠭᠠᠯᠢ ᠣᠷᠴᠢᠨ ᠤ ᠬᠠᠮᠠᠭᠠᠯᠠᠯᠲᠠ ᠶᠢᠨ ᠠᠵᠢᠯ ᠪᠠᠶᠢᠭᠠᠯᠢ ᠣᠷᠴᠢᠨ ᠤ ᠬᠠᠮᠠᠭᠠᠯᠠᠯᠲᠠ ᠶᠢᠨ ᠠᠵᠢᠯ ᠪᠠᠶᠢᠭᠠᠯᠢ ᠣᠷᠴᠢᠨ ᠤ ᠬᠠᠮᠠᠭᠠᠯᠠᠯᠲᠠ ᠶᠢᠨ ᠠᠵᠢᠯ ᠪᠠᠶᠢᠭᠠᠯᠢ ᠣᠷᠴᠢᠨ ᠤ ᠬᠠᠮᠠᠭᠠᠯᠠᠯᠲᠠ ᠶᠢᠨ ᠠᠵᠢᠯ ᠮᠣᠩᠭᠣᠯ ᠦᠨᠳᠦᠰᠦᠲᠡᠨ ᠦ ᠦᠯᠡᠮᠵᠢ ᠰᠣᠶᠣᠯ ᠢ ᠬᠠᠮᠠᠭᠠᠯᠠᠨ ᠬᠥᠭᠵᠢᠭᠦᠯᠬᠦ ᠶᠢᠨ ᠲᠥᠯᠦᠭᠡ ᠶᠡᠬᠡ ᠠᠵᠢᠯ ᠢ ᠶᠠᠪᠤᠭᠤᠯᠵᠤ ᠪᠠᠶᠢᠨ᠎ᠠ ᠃ ᠡᠨᠡ ᠨᠢ ᠦᠨᠳᠦᠰᠦᠲᠡᠨ ᠦ ᠰᠤᠷᠭᠠᠯ ᠬᠦᠮᠦᠵᠢᠯ ᠢ ᠳᠡᠭᠡᠭᠰᠢᠯᠡᠭᠦᠯᠬᠦ ᠳᠦ ᠴᠢᠬᠤᠯᠠ ᠠᠴᠠ ᠤᠯᠤᠰ ᠲᠥᠷᠦ ᠶᠢᠨ ᠪᠣᠳᠯᠣᠭ᠎ᠠ ᠶᠢ ᠬᠡᠷᠡᠭᠵᠢᠭᠦᠯᠬᠦ ᠃ ᠮᠣᠩᠭᠣᠯ ᠦᠨᠳᠦᠰᠦᠲᠡᠨ ᠦ ᠦᠯᠡᠮᠵᠢ ᠰᠣᠶᠣᠯ ᠢ ᠬᠠᠮᠠᠭᠠᠯᠠᠨ ᠬᠥᠭᠵᠢᠭᠦᠯᠬᠦ ᠶᠢᠨ ᠲᠥᠯᠦᠭᠡ ᠶᠡᠬᠡ ᠠᠵᠢᠯ ᠢ ᠶᠠᠪᠤᠭᠤᠯᠵᠤ ᠪᠠᠶᠢᠨ᠎ᠠ ᠃ ᠡᠨᠡ ᠨᠢ ᠦᠨᠳᠦᠰᠦᠲᠡᠨ ᠦ ᠰᠤᠷᠭᠠᠯ ᠬᠦᠮᠦᠵᠢᠯ ᠢ ᠳᠡᠭᠡᠭᠰᠢᠯᠡᠭᠦᠯᠬᠦ ᠳᠦ ᠴᠢᠬᠤᠯᠠ ᠠᠴᠠ ᠤᠯᠤᠰ ᠲᠥᠷᠦ ᠶᠢᠨ ᠪᠣᠳᠯᠣᠭ᠎ᠠ ᠶᠢ ᠬᠡᠷᠡᠭᠵᠢᠭᠦᠯᠬᠦ ᠃ ᠮᠣᠩᠭᠣᠯ ᠦᠨᠳᠦᠰᠦᠲᠡᠨ ᠦ ᠦᠯᠡᠮᠵᠢ ᠰᠣᠶᠣᠯ ᠢ ᠬᠠᠮᠠᠭᠠᠯᠠᠨ ᠬᠥᠭᠵᠢᠭᠦᠯᠬᠦ ᠶᠢᠨ ᠲᠥᠯᠦᠭᠡ ᠶᠡᠬᠡ ᠠᠵᠢᠯ ᠢ ᠶᠠᠪᠤᠭᠤᠯᠵᠤ ᠪᠠᠶᠢᠨ᠎ᠠ ᠃ ᠡᠨᠡ ᠨᠢ ᠦᠨᠳᠦᠰᠦᠲᠡᠨ ᠦ ᠰᠤᠷᠭᠠᠯ ᠬᠦᠮᠦᠵᠢᠯ ᠢ ᠳᠡᠭᠡᠭᠰᠢᠯᠡᠭᠦᠯᠬᠦ ᠳᠦ ᠴᠢᠬᠤᠯᠠ ᠠᠴᠠ ᠤᠯᠤᠰ ᠲᠥᠷᠦ ᠶᠢᠨ ᠪᠣᠳᠯᠣᠭ᠎ᠠ ᠶᠢ ᠬᠡᠷᠡᠭᠵᠢᠭᠦᠯᠬᠦ ᠃ ᠮᠣᠩᠭᠣᠯ ᠦᠨᠳᠦᠰᠦᠲᠡᠨ ᠦ ᠦᠯᠡᠮᠵᠢ ᠰᠣᠶᠣᠯ ᠢ ᠬᠠᠮᠠᠭᠠᠯᠠᠨ ᠬᠥᠭᠵᠢᠭᠦᠯᠬᠦ ᠶᠢᠨ ᠲᠥᠯᠦᠭᠡ ᠶᠡᠬᠡ ᠠᠵᠢᠯ ᠢ ᠶᠠᠪᠤᠭᠤᠯᠵᠤ ᠪᠠᠶᠢᠨ᠎ᠠ ᠃ ᠡᠨᠡ ᠨᠢ ᠦᠨᠳᠦᠰᠦᠲᠡᠨ ᠦ ᠰᠤᠷᠭᠠᠯ ᠬᠦᠮᠦᠵᠢᠯ ᠢ ᠳᠡᠭᠡᠭᠰᠢᠯᠡᠭᠦᠯᠬᠦ ᠳᠦ ᠴᠢᠬᠤᠯᠠ ᠠᠴᠠ ᠤᠯᠤᠰ ᠲᠥᠷᠦ ᠶᠢᠨ ᠪᠣᠳᠯᠣᠭ᠎ᠠ ᠶᠢ ᠬᠡᠷᠡᠭᠵᠢᠭᠦᠯᠬᠦ ᠃ ᠮᠣᠩᠭᠣᠯ ᠦᠨᠳᠦᠰᠦᠲᠡᠨ ᠦ ᠦᠯᠡᠮᠵᠢ ᠰᠣᠶᠣᠯ ᠢ ᠬᠠᠮᠠᠭᠠᠯᠠᠨ ᠬᠥᠭᠵᠢᠭᠦᠯᠬᠦ ᠶᠢᠨ ᠲᠥᠯᠦᠭᠡ ᠶᠡᠬᠡ ᠠᠵᠢᠯ ᠢ ᠶᠠᠪᠤᠭᠤᠯᠵᠤ ᠪᠠᠶᠢᠨ᠎ᠠ ᠃ ᠡᠨᠡ ᠨᠢ ᠦᠨᠳᠦᠰᠦᠲᠡᠨ ᠦ ᠰᠤᠷᠭᠠᠯ ᠬᠦᠮᠦᠵᠢᠯ ᠢ ᠳᠡᠭᠡᠭᠰᠢᠯᠡᠭᠦᠯᠬᠦ ᠳᠦ ᠴᠢᠬᠤᠯᠠ ᠠᠴᠠ ᠤᠯᠤᠰ ᠲᠥᠷᠦ ᠶᠢᠨ ᠪᠣᠳᠯᠣᠭ᠎ᠠ ᠶᠢ ᠬᠡᠷᠡᠭᠵᠢᠭᠦᠯᠬᠦ ᠃ ᠮᠣᠩᠭᠣᠯ ᠦᠨᠳᠦᠰᠦᠲᠡᠨ ᠦ ᠦᠯᠡᠮᠵᠢ ᠰᠣᠶᠣᠯ ᠢ ᠬᠠᠮᠠᠭᠠᠯᠠᠨ ᠬᠥᠭᠵᠢᠭᠦᠯᠬᠦ ᠶᠢᠨ ᠲᠥᠯᠦᠭᠡ ᠶᠡᠬᠡ ᠠᠵᠢᠯ ᠢ ᠶᠠᠪᠤᠭᠤᠯᠵᠤ ᠪᠠᠶᠢᠨ᠎ᠠ ᠃ ᠡᠨᠡ ᠨᠢ ᠦᠨᠳᠦᠰᠦᠲᠡᠨ ᠦ ᠰᠤᠷᠭᠠᠯ ᠬᠦᠮᠦᠵᠢᠯ ᠢ ᠳᠡᠭᠡᠭᠰᠢᠯᠡᠭᠦᠯᠬᠦ ᠳᠦ ᠴᠢᠬᠤᠯᠠ ᠠᠴᠠ ᠤᠯᠤᠰ ᠲᠥᠷᠦ ᠶᠢᠨ ᠪᠣᠳᠯᠣᠭ᠎ᠠ ᠶᠢ ᠬᠡᠷᠡᠭᠵᠢᠭᠦᠯᠬᠦ ᠃ ᠮᠣᠩᠭᠣᠯ ᠦᠨᠳᠦᠰᠦᠲᠡᠨ ᠦ ᠦᠯᠡᠮᠵᠢ ᠰᠣᠶᠣᠯ ᠢ ᠬᠠᠮᠠᠭᠠᠯᠠᠨ ᠬᠥᠭᠵᠢᠭᠦᠯᠬᠦ ᠶᠢᠨ ᠲᠥᠯᠦᠭᠡ ᠶᠡᠬᠡ ᠠᠵᠢᠯ ᠢ ᠶᠠᠪᠤᠭᠤᠯᠵᠤ ᠪᠠᠶᠢᠨ᠎ᠠ ᠃ ᠡᠨᠡ ᠨᠢ ᠦᠨᠳᠦᠰᠦᠲᠡᠨ ᠦ ᠰᠤᠷᠭᠠᠯ ᠬᠦᠮᠦᠵᠢᠯ ᠢ ᠳᠡᠭᠡᠭᠰᠢᠯᠡᠭᠦᠯᠬᠦ ᠳᠦ ᠴᠢᠬᠤᠯᠠ ᠠᠴᠠ ᠤᠯᠤᠰ ᠲᠥᠷᠦ ᠶᠢᠨ ᠪᠣᠳᠯᠣᠭ᠎ᠠ ᠶᠢ ᠬᠡᠷᠡᠭᠵᠢᠭᠦᠯᠬᠦ ᠃ ᠮᠣᠩᠭᠣᠯ ᠦᠨᠳᠦᠰᠦᠲᠡᠨ ᠦ ᠦᠯᠡᠮᠵᠢ ᠰᠣᠶᠣᠯ ᠢ ᠬᠠᠮᠠᠭᠠᠯᠠᠨ ᠬᠥᠭᠵᠢᠭᠦᠯᠬᠦ ᠶᠢᠨ ᠲᠥᠯᠦᠭᠡ ᠶᠡᠬᠡ ᠠᠵᠢᠯ ᠢ ᠶᠠᠪᠤᠭᠤᠯᠵᠤ ᠪᠠᠶᠢᠨ᠎ᠠ ᠃ ᠡᠨᠡ ᠨᠢ ᠦᠨᠳᠦᠰᠦᠲᠡᠨ ᠦ ᠰᠤᠷᠭᠠᠯ ᠬᠦᠮᠦᠵᠢᠯ ᠢ ᠳᠡᠭᠡᠭᠰᠢᠯᠡᠭᠦᠯᠬᠦ ᠳᠦ ᠴᠢᠬᠤᠯᠠ ᠠᠴᠠ ᠤᠯᠤᠰ ᠲᠥᠷᠦ ᠶᠢᠨ ᠪᠣᠳᠯᠣᠭ᠎ᠠ ᠶᠢ ᠬᠡᠷᠡᠭᠵᠢᠭᠦᠯᠬᠦ ᠃ ᠮᠣᠩᠭᠣᠯ ᠦᠨᠳᠦᠰᠦᠲᠡᠨ ᠦ ᠦᠯᠡᠮᠵᠢ ᠰᠣᠶᠣᠯ ᠢ ᠬᠠᠮᠠᠭᠠᠯᠠᠨ ᠬᠥᠭᠵᠢᠭᠦᠯᠬᠦ ᠶᠢᠨ ᠲᠥᠯᠦᠭᠡ ᠶᠡᠬᠡ ᠠᠵᠢᠯ ᠢ ᠶᠠᠪᠤᠭᠤᠯᠵᠤ ᠪᠠᠶᠢᠨ᠎ᠠ ᠃ ᠡᠨᠡ ᠨᠢ ᠦᠨᠳᠦᠰᠦᠲᠡᠨ ᠦ ᠰᠤᠷᠭᠠᠯ ᠬᠦᠮᠦᠵᠢᠯ ᠢ ᠳᠡᠭᠡᠭᠰᠢᠯᠡᠭᠦᠯᠬᠦ ᠳᠦ ᠴᠢᠬᠤᠯᠠ ᠠᠴᠠ ᠤᠯᠤᠰ ᠲᠥᠷᠦ ᠶᠢᠨ ᠪᠣᠳᠯᠣᠭ᠎ᠠ ᠶᠢ ᠬᠡᠷᠡᠭᠵᠢᠭᠦᠯᠬᠦ ᠃ ᠮᠣᠩᠭᠣᠯ ᠦᠨᠳᠦᠰᠦᠲᠡᠨ ᠦ ᠦᠯᠡᠮᠵᠢ ᠰᠣᠶᠣᠯ ᠢ ᠬᠠᠮᠠᠭᠠᠯᠠᠨ ᠬᠥᠭᠵᠢᠭᠦᠯᠬᠦ ᠶᠢᠨ ᠲᠥᠯᠦᠭᠡ ᠶᠡᠬᠡ ᠠᠵᠢᠯ ᠢ ᠶᠠᠪᠤᠭᠤᠯᠵᠤ ᠪᠠᠶᠢᠨ᠎ᠠ ᠃ ᠡᠨᠡ ᠨᠢ ᠦᠨᠳᠦᠰᠦᠲᠡᠨ ᠦ ᠰᠤᠷᠭᠠᠯ ᠬᠦᠮᠦᠵᠢᠯ ᠢ ᠳᠡᠭᠡᠭᠰᠢᠯᠡᠭᠦᠯᠬᠦ ᠳᠦ ᠴᠢᠬᠤᠯᠠ ᠠᠴᠠ ᠤᠯᠤᠰ ᠲᠥᠷᠦ ᠶᠢᠨ ᠪᠣᠳᠯᠣᠭ᠎ᠠ ᠶᠢ ᠬᠡᠷᠡᠭᠵᠢᠭᠦᠯᠬᠦ ᠃ ᠮᠣᠩᠭᠣᠯ ᠦᠨᠳᠦᠰᠦᠲᠡᠨ ᠦ ᠦᠯᠡᠮᠵᠢ ᠰᠣᠶᠣᠯ ᠢ ᠬᠠᠮᠠᠭᠠᠯᠠᠨ ᠬᠥᠭᠵᠢᠭᠦᠯᠬᠦ ᠶᠢᠨ ᠲᠥᠯᠦᠭᠡ ᠶᠡᠬᠡ ᠠᠵᠢᠯ ᠢ ᠶᠠᠪᠤᠭᠤᠯᠵᠤ ᠪᠠᠶᠢᠨ᠎ᠠ ᠃ ᠡᠨᠡ ᠨᠢ ᠦᠨᠳᠦᠰᠦᠲᠡᠨ ᠦ ᠰᠤᠷᠭᠠᠯ ᠬᠦᠮᠦᠵᠢᠯ ᠢ ᠳᠡᠭᠡᠭᠰᠢᠯᠡᠭᠦᠯᠬᠦ ᠳᠦ ᠴᠢᠬᠤᠯᠠ ᠠᠴᠠ ᠤᠯᠤᠰ ᠲᠥᠷᠦ ᠶᠢᠨ ᠪᠣᠳᠯᠣᠭ᠎ᠠ ᠶᠢ ᠬᠡᠷᠡᠭᠵᠢᠭᠦᠯᠬᠦ ᠃ ᠮᠣᠩᠭᠣᠯ ᠦᠨᠳᠦᠰᠦᠲᠡᠨ ᠦ ᠦᠯᠡᠮᠵᠢ ᠰᠣᠶᠣᠯ ᠢ ᠬᠠᠮᠠᠭᠠᠯᠠᠨ ᠬᠥᠭᠵᠢᠭᠦᠯᠬᠦ ᠶᠢᠨ ᠲᠥᠯᠦᠭᠡ ᠶᠡᠬᠡ ᠠᠵᠢᠯ ᠢ ᠶᠠᠪᠤᠭᠤᠯᠵᠤ ᠪᠠᠶᠢᠨ᠎ᠠ ᠃ ᠡᠨᠡ ᠨᠢ ᠦᠨᠳᠦᠰᠦᠲᠡᠨ ᠦ ᠰᠤᠷᠭᠠᠯ ᠬᠦᠮᠦᠵᠢᠯ ᠢ ᠳᠡᠭᠡᠭᠰᠢᠯᠡᠭᠦᠯᠬᠦ ᠳᠦ ᠴᠢᠬᠤᠯᠠ ᠠᠴᠠ ᠤᠯᠤᠰ ᠲᠥᠷᠦ ᠶᠢᠨ ᠪᠣᠳᠯᠣᠭ᠎ᠠ ᠶᠢ ᠬᠡᠷᠡᠭᠵᠢᠭᠦᠯᠬᠦ ᠃ ᠮᠣᠩᠭᠣᠯ ᠦᠨᠳᠦᠰᠦᠲᠡᠨ ᠦ ᠦᠯᠡᠮᠵᠢ ᠰᠣᠶᠣᠯ ᠢ ᠬᠠᠮᠠᠭᠠᠯᠠᠨ ᠬᠥᠭᠵᠢᠭᠦᠯᠬᠦ ᠶᠢᠨ ᠲᠥᠯᠦᠭᠡ ᠶᠡᠬᠡ ᠠᠵᠢᠯ ᠢ ᠶᠠᠪᠤᠭᠤᠯᠵᠤ ᠪᠠᠶᠢᠨ᠎ᠠ ᠃ ᠡᠨᠡ ᠨᠢ ᠦᠨᠳᠦᠰᠦᠲᠡᠨ ᠦ ᠰᠤᠷᠭᠠᠯ ᠬᠦᠮᠦᠵᠢᠯ ᠢ ᠳᠡᠭᠡᠭᠰᠢᠯᠡᠭᠦᠯᠬᠦ ᠳᠦ ᠴᠢᠬᠤᠯᠠ ᠠᠴᠠ ᠤᠯᠤᠰ ᠲᠥᠷᠦ ᠶᠢᠨ ᠪᠣᠳᠯᠣᠭ᠎ᠠ ᠶᠢ ᠬᠡᠷᠡᠭᠵᠢᠭᠦᠯᠬᠦ ᠃ ᠮᠣᠩᠭᠣᠯ ᠦᠨᠳᠦᠰᠦᠲᠡᠨ ᠦ ᠦᠯᠡᠮᠵᠢ ᠰᠣᠶᠣᠯ ᠢ ᠬᠠᠮᠠᠭᠠᠯᠠᠨ ᠬᠥᠭᠵᠢᠭᠦᠯᠬᠦ ᠶᠢᠨ ᠲᠥᠯᠦᠭᠡ ᠶᠡᠬᠡ ᠠᠵᠢᠯ ᠢ ᠶᠠᠪᠤᠭᠤᠯᠵᠤ ᠪᠠᠶᠢᠨ᠎ᠠ ᠃ ᠡᠨᠡ ᠨᠢ ᠦᠨᠳᠦᠰᠦᠲᠡᠨ ᠦ ᠰᠤᠷᠭᠠᠯ ᠬᠦᠮᠦᠵᠢᠯ ᠢ ᠳᠡᠭᠡᠭᠰᠢᠯᠡᠭᠦᠯᠬᠦ ᠳᠦ ᠴᠢᠬᠤᠯᠠ ᠠᠴᠠ ᠤᠯᠤᠰ ᠲᠥᠷᠦ ᠶᠢᠨ ᠪᠣᠳᠯᠣᠭ᠎ᠠ ᠶᠢ ᠬᠡᠷᠡᠭᠵᠢᠭᠦᠯᠬᠦ ᠃ ᠮᠣᠩᠭᠣᠯ ᠦᠨᠳᠦᠰᠦᠲᠡᠨ ᠦ ᠦᠯᠡᠮᠵᠢ ᠰᠣᠶᠣᠯ ᠢ ᠬᠠᠮᠠᠭᠠᠯᠠᠨ ᠬᠥᠭᠵᠢᠭᠦᠯᠬᠦ ᠶᠢᠨ ᠲᠥᠯᠦᠭᠡ ᠶᠡᠬᠡ ᠠᠵᠢᠯ ᠢ ᠶᠠᠪᠤᠭᠤᠯᠵᠤ ᠪᠠᠶᠢᠨ᠎ᠠ ᠃ ᠡᠨᠡ ᠨᠢ ᠦᠨᠳᠦᠰᠦᠲᠡᠨ ᠦ ᠰᠤᠷᠭᠠᠯ ᠬᠦᠮᠦᠵᠢᠯ ᠢ ᠳᠡᠭᠡᠭᠰᠢᠯᠡᠭᠦᠯᠬᠦ ᠳᠦ ᠴᠢᠬᠤᠯᠠ ᠠᠴᠠ ᠤᠯᠤᠰ ᠲᠥᠷᠦ ᠶᠢᠨ ᠪᠣᠳᠯᠣᠭ᠎ᠠ ᠶᠢ ᠬᠡᠷᠡᠭᠵᠢᠭᠦᠯᠬᠦ ᠃ ᠮᠣᠩᠭᠣᠯ ᠦᠨᠳᠦᠰᠦᠲᠡᠨ ᠦ ᠦᠯᠡᠮᠵᠢ ᠰᠣᠶᠣᠯ ᠢ ᠬᠠᠮᠠᠭᠠᠯᠠᠨ ᠬᠥᠭᠵᠢᠭᠦᠯᠬᠦ ᠶᠢᠨ ᠲᠥᠯᠦᠭᠡ ᠶᠡᠬᠡ ᠠᠵᠢᠯ ᠢ ᠶᠠᠪᠤᠭᠤᠯᠵᠤ ᠪᠠᠶᠢᠨ᠎ᠠ ᠃ ᠡᠨᠡ ᠨᠢ ᠦᠨᠳᠦᠰᠦᠲᠡᠨ ᠦ ᠰᠤᠷᠭᠠᠯ ᠬᠦᠮᠦᠵᠢᠯ ᠢ ᠳᠡᠭᠡᠭᠰᠢᠯᠡᠭᠦᠯᠬᠦ ᠳᠦ ᠴᠢᠬᠤᠯᠠ ᠠᠴᠠ ᠤᠯᠤᠰ ᠲᠥᠷᠦ ᠶᠢᠨ ᠪᠣᠳᠯᠣᠭ᠎ᠠ ᠶᠢ ᠬᠡᠷᠡᠭᠵᠢᠭᠦᠯᠬᠦ ᠃ ᠮᠣᠩᠭᠣᠯ ᠦᠨᠳᠦᠰᠦᠲᠡᠨ ᠦ ᠦᠯᠡᠮᠵᠢ ᠰᠣᠶᠣᠯ ᠢ ᠬᠠᠮᠠᠭᠠᠯᠠᠨ ᠬᠥᠭᠵᠢᠭᠦᠯᠬᠦ ᠶᠢᠨ ᠲᠥᠯᠦᠭᠡ ᠶᠡᠬᠡ ᠠᠵᠢᠯ ᠢ ᠶᠠᠪᠤᠭᠤᠯᠵᠤ ᠪᠠᠶᠢᠨ᠎ᠠ ᠃ ᠡᠨᠡ ᠨᠢ ᠦᠨᠳᠦᠰᠦᠲᠡᠨ ᠦ ᠰᠤᠷᠭᠠᠯ ᠬᠦᠮᠦᠵᠢᠯ ᠢ ᠳᠡᠭᠡᠭᠰᠢᠯᠡᠭᠦᠯᠬᠦ ᠳᠦ ᠴᠢᠬᠤᠯᠠ ᠠᠴᠠ ᠤᠯᠤᠰ ᠲᠥᠷᠦ ᠶᠢᠨ ᠪᠣᠳᠯᠣᠭ᠎ᠠ ᠶᠢ ᠬᠡᠷᠡᠭᠵᠢᠭᠦᠯᠬᠦ ᠃ ᠮᠣᠩᠭᠣᠯ ᠦᠨᠳᠦᠰᠦᠲᠡᠨ ᠦ ᠦᠯᠡᠮᠵᠢ ᠰᠣᠶᠣᠯ ᠢ ᠬᠠᠮᠠᠭᠠᠯᠠᠨ ᠬᠥᠭᠵᠢᠭᠦᠯᠬᠦ ᠶᠢᠨ ᠲᠥᠯᠦᠭᠡ ᠶᠡᠬᠡ ᠠᠵᠢᠯ ᠢ ᠶᠠᠪᠤᠭᠤᠯᠵᠤ ᠪᠠᠶᠢᠨ᠎ᠠ ᠃ ᠡᠨᠡ ᠨᠢ ᠦᠨᠳᠦᠰᠦᠲᠡᠨ ᠦ ᠰᠤᠷᠭᠠᠯ ᠬᠦᠮᠦᠵᠢᠯ ᠢ ᠳᠡᠭᠡᠭᠰᠢᠯᠡᠭᠦᠯᠬᠦ ᠳᠦ ᠴᠢᠬᠤᠯᠠ ᠠᠴᠠ ᠤᠯᠤᠰ ᠲᠥᠷᠦ ᠶᠢᠨ ᠪᠣᠳᠯᠣᠭ᠎ᠠ ᠶᠢ ᠬᠡᠷᠡᠭᠵᠢᠭᠦᠯᠬᠦ ᠃ ᠮᠣᠩᠭᠣᠯ ᠦᠨᠳᠦᠰᠦᠲᠡᠨ ᠦ ᠦᠯᠡᠮᠵᠢ ᠰᠣᠶᠣᠯ ᠢ ᠬᠠᠮᠠᠭᠠᠯᠠᠨ ᠬᠥᠭᠵᠢᠭᠦᠯᠬᠦ ᠶᠢᠨ ᠲᠥᠯᠦᠭᠡ ᠶᠡᠬᠡ ᠠᠵᠢᠯ ᠢ ᠶᠠᠪᠤᠭᠤᠯᠵᠤ ᠪᠠᠶᠢᠨ᠎ᠠ ᠃ ᠡᠨᠡ ᠨᠢ ᠦᠨᠳᠦᠰᠦᠲᠡᠨ ᠦ ᠰᠤᠷᠭᠠᠯ ᠬᠦᠮᠦᠵᠢᠯ ᠢ ᠳᠡᠭᠡᠭᠰᠢᠯᠡᠭᠦᠯᠬᠦ ᠳᠦ ᠴᠢᠬᠤᠯᠠ ᠠᠴᠠ ᠤᠯᠤᠰ ᠲᠥᠷᠦ ᠶᠢᠨ ᠪᠣᠳᠯᠣᠭ᠎ᠠ ᠶᠢ ᠬᠡᠷᠡᠭᠵᠢᠭᠦᠯᠬᠦ ᠃ ᠮᠣᠩᠭᠣᠯ ᠦᠨᠳᠦᠰᠦᠲᠡᠨ ᠦ ᠦᠯᠡᠮᠵᠢ ᠰᠣᠶᠣᠯ ᠢ ᠬᠠᠮᠠᠭᠠᠯᠠᠨ ᠬᠥᠭᠵᠢᠭᠦᠯᠬᠦ ᠶᠢᠨ ᠲᠥᠯᠦᠭᠡ ᠶᠡᠬᠡ ᠠᠵᠢᠯ ᠢ ᠶᠠᠪᠤᠭᠤᠯᠵᠤ ᠪᠠᠶᠢᠨ᠎ᠠ ᠃ ᠡᠨᠡ ᠨᠢ ᠦᠨᠳᠦᠰᠦᠲᠡᠨ ᠦ ᠰᠤᠷᠭᠠᠯ ᠬᠦᠮᠦᠵᠢᠯ ᠢ ᠳᠡᠭᠡᠭᠰᠢᠯᠡᠭᠦᠯᠬᠦ ᠳᠦ ᠴᠢᠬᠤᠯᠠ ᠠᠴᠠ ᠤᠯᠤᠰ ᠲᠥᠷᠦ ᠶᠢᠨ ᠪᠣᠳᠯᠣᠭ᠎ᠠ ᠶᠢ ᠬᠡᠷᠡᠭᠵᠢᠭᠦᠯᠬᠦ ᠃ ᠮᠣᠩᠭᠣᠯ ᠦᠨᠳᠦᠰᠦᠲᠡᠨ ᠦ ᠦᠯᠡᠮᠵᠢ ᠰᠣᠶᠣᠯ ᠢ ᠬᠠᠮᠠᠭᠠᠯᠠᠨ ᠬᠥᠭᠵᠢᠭᠦᠯᠬᠦ ᠶᠢᠨ ᠲᠥᠯᠦᠭᠡ ᠶᠡᠬᠡ ᠠᠵᠢᠯ ᠢ ᠶᠠᠪᠤᠭᠤᠯᠵᠤ ᠪᠠᠶᠢᠨ᠎ᠠ ᠃ ᠡᠨᠡ ᠨᠢ ᠦᠨᠳᠦᠰᠦᠲᠡᠨ ᠦ ᠰᠤᠷᠭᠠᠯ ᠬᠦᠮᠦᠵᠢᠯ ᠢ ᠳᠡᠭᠡᠭᠰᠢᠯᠡᠭᠦᠯᠬᠦ ᠳᠦ ᠴᠢᠬᠤᠯᠠ ᠠᠴᠠ ᠤᠯᠤᠰ ᠲᠥᠷᠦ ᠶᠢᠨ ᠪᠣᠳᠯᠣᠭ᠎ᠠ ᠶᠢ ᠬᠡᠷᠡᠭᠵᠢᠭᠦᠯᠬᠦ ᠃ ᠮᠣᠩᠭᠣᠯ ᠦᠨᠳᠦᠰᠦᠲᠡᠨ ᠦ ᠦᠯᠡᠮᠵᠢ ᠰᠣᠶᠣᠯ ᠢ ᠬᠠᠮᠠᠭᠠᠯᠠᠨ ᠬᠥᠭᠵᠢᠭᠦᠯᠬᠦ ᠶᠢᠨ ᠲᠥᠯᠦᠭᠡ ᠶᠡᠬᠡ ᠠᠵᠢᠯ ᠢ ᠶᠠᠪᠤᠭᠤᠯᠵᠤ ᠪᠠᠶᠢᠨ᠎ᠠ ᠃ ᠡᠨᠡ ᠨᠢ ᠦᠨᠳᠦᠰᠦᠲᠡᠨ ᠦ ᠰᠤᠷᠭᠠᠯ ᠬᠦᠮᠦᠵᠢᠯ ᠢ ᠳᠡᠭᠡᠭᠰᠢᠯᠡᠭᠦᠯᠬᠦ ᠳᠦ ᠴᠢᠬᠤᠯᠠ ᠠᠴᠠ ᠤᠯᠤᠰ ᠲᠥᠷᠦ ᠶᠢᠨ ᠪᠣᠳᠯᠣᠭ᠎ᠠ ᠶᠢ ᠬᠡᠷᠡᠭᠵᠢᠭᠦᠯᠬᠦ ᠃ ᠮᠣᠩᠭᠣᠯ ᠦᠨᠳᠦᠰᠦᠲᠡᠨ ᠦ ᠦᠯᠡᠮᠵᠢ ᠰᠣᠶᠣᠯ ᠢ ᠬᠠᠮᠠᠭᠠᠯᠠᠨ ᠬᠥᠭᠵᠢᠭᠦᠯᠬᠦ ᠶᠢᠨ ᠲᠥᠯᠦᠭᠡ ᠶᠡᠬᠡ ᠠᠵᠢᠯ ᠢ ᠶᠠᠪᠤᠭᠤᠯᠵᠤ ᠪᠠᠶᠢᠨ᠎ᠠ ᠃ ᠡᠨᠡ ᠨᠢ ᠦᠨᠳᠦᠰᠦᠲᠡᠨ ᠦ ᠰᠤᠷᠭᠠᠯ ᠬᠦᠮᠦᠵᠢᠯ ᠢ ᠳᠡᠭᠡᠭᠰᠢᠯᠡᠭᠦᠯᠬᠦ ᠳᠦ ᠴᠢᠬᠤᠯᠠ ᠠᠴᠠ ᠤᠯᠤᠰ ᠲᠥᠷᠦ ᠶᠢᠨ ᠪᠣᠳᠯᠣᠭ᠎ᠠ ᠶᠢ ᠬᠡᠷᠡᠭᠵᠢᠭᠦᠯᠬᠦ ᠃ ᠮᠣᠩᠭᠣᠯ ᠦᠨᠳᠦᠰᠦᠲᠡᠨ ᠦ ᠦᠯᠡᠮᠵᠢ ᠰᠣᠶᠣᠯ ᠢ ᠬᠠᠮᠠᠭᠠᠯᠠᠨ ᠬᠥᠭᠵᠢᠭᠦᠯᠬᠦ ᠶᠢᠨ ᠲᠥᠯᠦᠭᠡ ᠶᠡᠬᠡ ᠠᠵᠢᠯ ᠢ ᠶᠠᠪᠤᠭᠤᠯᠵᠤ ᠪᠠᠶᠢᠨ᠎ᠠ ᠃ ᠡᠨᠡ ᠨᠢ ᠦᠨᠳᠦᠰᠦᠲᠡᠨ ᠦ ᠰᠤᠷᠭᠠᠯ ᠬᠦᠮᠦᠵᠢᠯ ᠢ ᠳᠡᠭᠡᠭᠰᠢᠯᠡᠭᠦᠯᠬᠦ ᠳᠦ ᠴᠢᠬᠤᠯᠠ ᠠᠴᠠ ᠤᠯᠤᠰ ᠲᠥᠷᠦ ᠶᠢᠨ ᠪᠣᠳᠯᠣᠭ᠎ᠠ ᠶᠢ ᠬᠡᠷᠡᠭᠵᠢᠭᠦᠯᠬᠦ ᠃ ᠮᠣᠩᠭᠣᠯ ᠦᠨᠳᠦᠰᠦᠲᠡᠨ ᠦ ᠦᠯᠡᠮᠵᠢ ᠰᠣᠶᠣᠯ ᠢ ᠬᠠᠮᠠᠭᠠᠯᠠᠨ ᠬᠥᠭᠵᠢᠭᠦᠯᠬᠦ ᠶᠢᠨ ᠲᠥᠯᠦᠭᠡ ᠶᠡᠬᠡ ᠠᠵᠢᠯ ᠢ ᠶᠠᠪᠤᠭᠤᠯᠵᠤ ᠪᠠᠶᠢᠨ᠎ᠠ ᠃ ᠡᠨᠡ ᠨᠢ ᠦᠨᠳᠦᠰᠦᠲᠡᠨ ᠦ ᠰᠤᠷᠭᠠᠯ ᠬᠦᠮᠦᠵᠢᠯ ᠢ ᠳᠡᠭᠡᠭᠰᠢᠯᠡᠭᠦᠯᠬᠦ ᠳᠦ ᠴᠢᠬᠤᠯᠠ ᠠᠴᠠ ᠤᠯᠤᠰ ᠲᠥᠷᠦ ᠶᠢᠨ ᠪᠣᠳᠯᠣᠭ᠎ᠠ ᠶᠢ ᠬᠡᠷᠡᠭᠵᠢᠭᠦᠯᠬᠦ ᠃ ᠮᠣᠩᠭᠣᠯ ᠦᠨᠳᠦᠰᠦᠲᠡᠨ ᠦ ᠦᠯᠡᠮᠵᠢ ᠰᠣᠶᠣᠯ ᠢ ᠬᠠᠮᠠᠭᠠᠯᠠᠨ ᠬᠥᠭᠵᠢᠭᠦᠯᠬᠦ ᠶᠢᠨ ᠲᠥᠯᠦᠭᠡ ᠶᠡᠬᠡ ᠠᠵᠢᠯ ᠢ ᠶᠠᠪᠤᠭᠤᠯᠵᠤ ᠪᠠᠶᠢᠨ᠎ᠠ ᠃ ᠡᠨᠡ ᠨᠢ ᠦᠨᠳᠦᠰᠦᠲᠡᠨ ᠦ ᠰᠤᠷᠭᠠᠯ ᠬᠦᠮᠦᠵᠢᠯ ᠢ ᠳᠡᠭᠡᠭᠰᠢᠯᠡᠭᠦᠯᠬᠦ ᠳᠦ ᠴᠢᠬᠤᠯᠠ ᠠᠴᠠ ᠤᠯᠤᠰ ᠲᠥᠷᠦ ᠶᠢᠨ ᠪᠣᠳᠯᠣᠭ᠎ᠠ ᠶᠢ ᠬᠡᠷᠡᠭᠵᠢᠭᠦᠯᠬᠦ ᠃ ᠮᠣᠩᠭᠣᠯ ᠦᠨᠳᠦᠰᠦᠲᠡᠨ ᠦ ᠦᠯᠡᠮᠵᠢ ᠰᠣᠶᠣᠯ ᠢ ᠬᠠᠮᠠᠭᠠᠯᠠᠨ ᠬᠥᠭᠵᠢᠭᠦᠯᠬᠦ ᠶᠢᠨ ᠲᠥᠯᠦᠭᠡ ᠶᠡᠬᠡ ᠠᠵᠢᠯ ᠢ ᠶᠠᠪᠤᠭᠤᠯᠵᠤ ᠪᠠᠶᠢᠨ᠎ᠠ ᠃ ᠡᠨᠡ ᠨᠢ ᠦᠨᠳᠦᠰᠦᠲᠡᠨ ᠦ ᠰᠤᠷᠭᠠᠯ ᠬᠦᠮᠦᠵᠢᠯ ᠢ ᠳᠡᠭᠡᠭᠰᠢᠯᠡᠭᠦᠯᠬᠦ ᠳᠦ ᠴᠢᠬᠤᠯᠠ ᠠᠴᠠ ᠤᠯᠤᠰ ᠲᠥᠷᠦ ᠶᠢᠨ ᠪᠣᠳᠯᠣᠭ᠎ᠠ ᠶᠢ ᠬᠡᠷᠡᠭᠵᠢᠭᠦᠯᠬᠦ ᠃ ᠮᠣᠩᠭᠣᠯ ᠦᠨᠳᠦᠰᠦᠲᠡᠨ ᠦ ᠦᠯᠡᠮᠵᠢ ᠰᠣᠶᠣᠯ ᠢ ᠬᠠᠮᠠᠭᠠᠯᠠᠨ ᠬᠥᠭᠵᠢᠭᠦᠯᠬᠦ ᠶᠢᠨ ᠲᠥᠯᠦᠭᠡ ᠶᠡᠬᠡ ᠠᠵᠢᠯ ᠢ ᠶᠠᠪᠤᠭᠤᠯᠵᠤ ᠪᠠᠶᠢᠨ᠎ᠠ ᠃ ᠡᠨᠡ ᠨᠢ ᠦᠨᠳᠦᠰᠦᠲᠡᠨ ᠦ ᠰᠤᠷᠭᠠᠯ ᠬᠦᠮᠦᠵᠢᠯ ᠢ ᠳᠡᠭᠡᠭᠰᠢᠯᠡᠭᠦᠯᠬᠦ ᠳᠦ ᠴᠢᠬᠤᠯᠠ ᠠᠴᠠ ᠤᠯᠤᠰ ᠲᠥᠷᠦ ᠶᠢᠨ ᠪᠣᠳᠯᠣᠭ᠎ᠠ ᠶᠢ ᠬᠡᠷᠡᠭᠵᠢᠭᠦᠯᠬᠦ ᠃ ᠮᠣᠩᠭᠣᠯ ᠦᠨᠳᠦᠰᠦᠲᠡᠨ ᠦ ᠦᠯᠡᠮᠵᠢ ᠰᠣᠶᠣᠯ ᠢ ᠬᠠᠮᠠᠭᠠᠯᠠᠨ ᠬᠥᠭᠵᠢᠭᠦᠯᠬᠦ ᠶᠢᠨ ᠲᠥᠯᠦᠭᠡ ᠶᠡᠬᠡ ᠠᠵᠢᠯ ᠢ ᠶᠠᠪᠤᠭᠤᠯᠵᠤ ᠪᠠᠶᠢᠨ᠎ᠠ ᠃ ᠡᠨᠡ ᠨᠢ ᠦᠨᠳᠦᠰᠦᠲᠡᠨ ᠦ ᠰᠤᠷᠭᠠᠯ ᠬᠦᠮᠦᠵᠢᠯ ᠢ ᠳᠡᠭᠡᠭᠰᠢᠯᠡᠭᠦᠯᠬᠦ ᠳᠦ ᠴᠢᠬᠤᠯᠠ ᠠᠴᠠ ᠤᠯᠤᠰ ᠲᠥᠷᠦ ᠶᠢᠨ ᠪᠣᠳᠯᠣᠭ᠎ᠠ ᠶᠢ ᠬᠡᠷᠡᠭᠵᠢᠭᠦᠯᠬᠦ ᠃ ᠮᠣᠩᠭᠣᠯ ᠦᠨᠳᠦᠰᠦᠲᠡᠨ ᠦ ᠦᠯᠡᠮᠵᠢ ᠰᠣᠶᠣᠯ ᠢ ᠬᠠᠮᠠᠭᠠᠯᠠᠨ ᠬᠥᠭᠵᠢᠭᠦᠯᠬᠦ ᠶᠢᠨ ᠲᠥᠯᠦᠭᠡ ᠶᠡᠬᠡ ᠠᠵᠢᠯ ᠢ ᠶᠠᠪᠤᠭᠤᠯᠵᠤ ᠪᠠᠶᠢᠨ᠎ᠠ ᠃ ᠡᠨᠡ ᠨᠢ ᠦᠨᠳᠦᠰᠦᠲᠡᠨ ᠦ ᠰᠤᠷᠭᠠᠯ ᠬᠦᠮᠦᠵᠢᠯ ᠢ ᠳᠡᠭᠡᠭᠰᠢᠯᠡᠭᠦᠯᠬᠦ ᠳᠦ ᠴᠢᠬᠤᠯᠠ ᠠᠴᠠ ᠤᠯᠤᠰ ᠲᠥᠷᠦ ᠶᠢᠨ ᠪᠣᠳᠯᠣᠭ᠎ᠠ ᠶᠢ ᠬᠡᠷᠡᠭᠵᠢᠭᠦᠯᠬᠦ ᠃ ᠮᠣᠩᠭᠣᠯ ᠦᠨᠳᠦᠰᠦᠲᠡᠨ ᠦ ᠦᠯᠡᠮᠵᠢ ᠰᠣᠶᠣᠯ ᠢ ᠬᠠᠮᠠᠭᠠᠯᠠᠨ ᠬᠥᠭᠵᠢᠭᠦᠯᠬᠦ ᠶᠢᠨ ᠲᠥᠯᠦᠭᠡ ᠶᠡᠬᠡ ᠠᠵᠢᠯ ᠢ ᠶᠠᠪᠤᠭᠤᠯᠵᠤ ᠪᠠᠶᠢᠨ᠎ᠠ ᠃ ᠡᠨᠡ ᠨᠢ ᠦᠨᠳᠦᠰᠦᠲᠡᠨ ᠦ ᠰᠤᠷᠭᠠᠯ ᠬᠦᠮᠦᠵᠢᠯ ᠢ ᠳᠡᠭᠡᠭᠰᠢᠯᠡᠭᠦᠯᠬᠦ ᠳᠦ ᠴᠢᠬᠤᠯᠠ ᠠᠴᠠ ᠤᠯᠤᠰ ᠲᠥᠷᠦ ᠶᠢᠨ ᠪᠣᠳᠯᠣᠭ᠎ᠠ ᠶᠢ ᠬᠡᠷᠡᠭᠵᠢᠭᠦᠯᠬᠦ ᠃ ᠮᠣᠩᠭᠣᠯ ᠦᠨᠳᠦᠰᠦᠲᠡᠨ ᠦ ᠦᠯᠡᠮᠵᠢ ᠰᠣᠶᠣᠯ ᠢ ᠬᠠᠮᠠᠭᠠᠯᠠᠨ ᠬᠥᠭᠵᠢᠭᠦᠯᠬᠦ ᠶᠢᠨ ᠲᠥᠯᠦᠭᠡ ᠶᠡᠬᠡ ᠠᠵᠢᠯ ᠢ ᠶᠠᠪᠤᠭᠤᠯᠵᠤ ᠪᠠᠶᠢᠨ᠎ᠠ ᠃ ᠡᠨᠡ ᠨᠢ ᠦᠨᠳᠦᠰᠦᠲᠡᠨ ᠦ ᠰᠤᠷᠭᠠᠯ ᠬᠦᠮᠦᠵᠢᠯ ᠢ ᠳᠡᠭᠡᠭᠰᠢᠯᠡᠭᠦᠯᠬᠦ ᠳᠦ ᠴᠢᠬᠤᠯᠠ ᠠᠴᠠ ᠤᠯᠤᠰ ᠲᠥᠷᠦ ᠶᠢᠨ ᠪᠣᠳᠯᠣᠭ᠎ᠠ ᠶᠢ ᠬᠡᠷᠡᠭᠵᠢᠭᠦᠯᠬᠦ ᠃ ᠮᠣᠩᠭᠣᠯ ᠦᠨᠳᠦᠰᠦᠲᠡᠨ ᠦ ᠦᠯᠡᠮᠵᠢ ᠰᠣᠶᠣᠯ ᠢ ᠬᠠᠮᠠᠭᠠᠯᠠᠨ ᠬᠥᠭᠵᠢᠭᠦᠯᠬᠦ ᠶᠢᠨ ᠲᠥᠯᠦᠭᠡ ᠶᠡᠬᠡ ᠠᠵᠢᠯ ᠢ ᠶᠠᠪᠤᠭᠤᠯᠵᠤ ᠪᠠᠶᠢᠨ᠎ᠠ ᠃ ᠡᠨᠡ ᠨᠢ ᠦᠨᠳᠦᠰᠦᠲᠡᠨ ᠦ ᠰᠤᠷᠭᠠᠯ ᠬᠦᠮᠦᠵᠢᠯ ᠢ ᠳᠡᠭᠡᠭᠰᠢᠯᠡᠭᠦᠯᠬᠦ ᠳᠦ ᠴᠢᠬᠤᠯᠠ ᠠᠴᠠ ᠤᠯᠤᠰ ᠲᠥᠷᠦ ᠶᠢᠨ ᠪᠣᠳᠯᠣᠭ᠎ᠠ ᠶᠢ ᠬᠡᠷᠡᠭᠵᠢᠭᠦᠯᠬᠦ ᠃ ᠮᠣᠩᠭᠣᠯ ᠦᠨᠳᠦᠰᠦᠲᠡᠨ ᠦ ᠦᠯᠡᠮᠵᠢ ᠰᠣᠶᠣᠯ ᠢ ᠬᠠᠮᠠᠭᠠᠯᠠᠨ ᠬᠥᠭᠵᠢᠭᠦᠯᠬᠦ ᠶᠢᠨ ᠲᠥᠯᠦᠭᠡ ᠶᠡᠬᠡ ᠠᠵᠢᠯ ᠢ ᠶᠠᠪᠤᠭᠤᠯᠵᠤ ᠪᠠᠶᠢᠨ᠎ᠠ ᠃ ᠡᠨᠡ ᠨᠢ ᠦᠨᠳᠦᠰᠦᠲᠡᠨ ᠦ ᠰᠤᠷᠭᠠᠯ ᠬᠦᠮᠦᠵᠢᠯ ᠢ ᠳᠡᠭᠡᠭᠰᠢᠯᠡᠭᠦᠯᠬᠦ ᠳᠦ ᠴᠢᠬᠤᠯᠠ ᠠᠴᠠ ᠤᠯᠤᠰ ᠲᠥᠷᠦ ᠶᠢᠨ ᠪᠣᠳᠯᠣᠭ᠎ᠠ ᠶᠢ ᠬᠡᠷᠡᠭᠵᠢᠭᠦᠯᠬᠦ ᠃ ᠮᠣᠩᠭᠣᠯ ᠦᠨᠳᠦᠰᠦᠲᠡᠨ ᠦ ᠦᠯᠡᠮᠵᠢ ᠰᠣᠶᠣᠯ ᠢ ᠬᠠᠮᠠᠭᠠᠯᠠᠨ ᠬᠥᠭᠵᠢᠭᠦᠯᠬᠦ ᠶᠢᠨ ᠲᠥᠯᠦᠭᠡ ᠶᠡᠬᠡ ᠠᠵᠢᠯ ᠢ ᠶᠠᠪᠤᠭᠤᠯᠵᠤ ᠪᠠᠶᠢᠨ᠎ᠠ ᠃ ᠡᠨᠡ ᠨᠢ ᠦᠨᠳᠦᠰᠦᠲᠡᠨ ᠦ ᠰᠤᠷᠭᠠᠯ ᠬᠦᠮᠦᠵᠢᠯ ᠢ ᠳᠡᠭᠡᠭᠰᠢᠯᠡᠭᠦᠯᠬᠦ ᠳᠦ ᠴᠢᠬᠤᠯᠠ ᠠᠴᠠ ᠤᠯᠤᠰ ᠲᠥᠷᠦ ᠶᠢᠨ ᠪᠣᠳᠯᠣᠭ᠎ᠠ ᠶᠢ ᠬᠡᠷᠡᠭᠵᠢᠭᠦᠯᠬᠦ ᠃ ᠮᠣᠩᠭᠣᠯ ᠦᠨᠳᠦᠰᠦᠲᠡᠨ ᠦ ᠦᠯᠡᠮᠵᠢ ᠰᠣᠶᠣᠯ ᠢ ᠬᠠᠮᠠᠭᠠᠯᠠᠨ ᠬᠥᠭᠵᠢᠭᠦᠯᠬᠦ ᠶᠢᠨ ᠲᠥᠯᠦᠭᠡ ᠶᠡᠬᠡ ᠠᠵᠢᠯ ᠢ ᠶᠠᠪᠤᠭᠤᠯᠵᠤ ᠪᠠᠶᠢᠨ᠎ᠠ ᠃ ᠡᠨᠡ ᠨᠢ ᠦᠨᠳᠦᠰᠦᠲᠡᠨ ᠦ ᠰᠤᠷᠭᠠᠯ ᠬᠦᠮᠦᠵᠢᠯ ᠢ ᠳᠡᠭᠡᠭᠰᠢᠯᠡᠭᠦᠯᠬᠦ ᠳᠦ ᠴᠢᠬᠤᠯᠠ ᠠᠴᠠ ᠤᠯᠤᠰ ᠲᠥᠷᠦ ᠶᠢᠨ ᠪᠣᠳᠯᠣᠭ᠎ᠠ ᠶᠢ ᠬᠡᠷᠡᠭᠵᠢᠭᠦᠯᠬᠦ ᠃ ᠮᠣᠩᠭᠣᠯ ᠦᠨᠳᠦᠰᠦᠲᠡᠨ ᠦ ᠦᠯᠡᠮᠵᠢ ᠰᠣᠶᠣᠯ ᠢ ᠬᠠᠮᠠᠭᠠᠯᠠᠨ ᠬᠥᠭᠵᠢᠭᠦᠯᠬᠦ ᠶᠢᠨ ᠲᠥᠯᠦᠭᠡ ᠶᠡᠬᠡ ᠠᠵᠢᠯ ᠢ ᠶᠠᠪᠤᠭᠤᠯᠵᠤ ᠪᠠᠶᠢᠨ᠎ᠠ ᠃ ᠡᠨᠡ ᠨᠢ ᠦᠨᠳᠦᠰᠦᠲᠡᠨ ᠦ ᠰᠤᠷᠭᠠᠯ ᠬᠦᠮᠦᠵᠢᠯ ᠢ ᠳᠡᠭᠡᠭᠰᠢᠯᠡᠭᠦᠯᠬᠦ ᠳᠦ ᠴᠢᠬᠤᠯᠠ ᠠᠴᠠ ᠤᠯᠤᠰ ᠲᠥᠷᠦ ᠶᠢᠨ ᠪᠣᠳᠯᠣᠭ᠎ᠠ ᠶᠢ ᠬᠡᠷᠡᠭᠵᠢᠭᠦᠯᠬᠦ ᠃ ᠮᠣᠩᠭᠣᠯ ᠦᠨᠳᠦᠰᠦᠲᠡᠨ ᠦ ᠦᠯᠡᠮᠵᠢ ᠰᠣᠶᠣᠯ ᠢ ᠬᠠᠮᠠᠭᠠᠯᠠᠨ ᠬᠥᠭᠵᠢᠭᠦᠯᠬᠦ ᠶᠢᠨ ᠲᠥᠯᠦᠭᠡ ᠶᠡᠬᠡ ᠠᠵᠢᠯ ᠢ ᠶᠠᠪᠤᠭᠤᠯᠵᠤ ᠪᠠᠶᠢᠨ᠎ᠠ ᠃ ᠡᠨᠡ ᠨᠢ ᠦᠨᠳᠦᠰᠦᠲᠡᠨ ᠦ ᠰᠤᠷᠭᠠᠯ ᠬᠦᠮᠦᠵᠢᠯ ᠢ ᠳᠡᠭᠡᠭᠰᠢᠯᠡᠭᠦᠯᠬᠦ ᠳᠦ ᠴᠢᠬᠤᠯᠠ ᠠᠴᠠ ᠤᠯᠤᠰ ᠲᠥᠷᠦ ᠶᠢᠨ ᠪᠣᠳᠯᠣᠭ᠎ᠠ ᠶᠢ ᠬᠡᠷᠡᠭᠵᠢᠭᠦᠯᠬᠦ ᠃ ᠮᠣᠩᠭᠣᠯ ᠦᠨᠳᠦᠰᠦᠲᠡᠨ ᠦ ᠦᠯᠡᠮᠵᠢ ᠰᠣᠶᠣᠯ ᠢ ᠬᠠᠮᠠᠭᠠᠯᠠᠨ ᠬᠥᠭᠵᠢᠭᠦᠯᠬᠦ ᠶᠢᠨ ᠲᠥᠯᠦᠭᠡ ᠶᠡᠬᠡ ᠠᠵᠢᠯ ᠢ ᠶᠠᠪᠤᠭᠤᠯᠵᠤ ᠪᠠᠶᠢᠨ᠎ᠠ ᠃ ᠡᠨᠡ ᠨᠢ ᠦᠨᠳᠦᠰᠦᠲᠡᠨ ᠦ ᠰᠤᠷᠭᠠᠯ ᠬᠦᠮᠦᠵᠢᠯ ᠢ ᠳᠡᠭᠡᠭᠰᠢᠯᠡᠭᠦᠯᠬᠦ ᠳᠦ ᠴᠢᠬᠤᠯᠠ ᠠᠴᠠ ᠤᠯᠤᠰ ᠲᠥᠷᠦ ᠶᠢᠨ ᠪᠣᠳᠯᠣᠭ᠎ᠠ ᠶᠢ ᠬᠡᠷᠡᠭᠵᠢᠭᠦᠯᠬᠦ ᠃ ᠮᠣᠩᠭᠣᠯ ᠦᠨᠳᠦᠰᠦᠲᠡᠨ ᠦ ᠦᠯᠡᠮᠵᠢ ᠰᠣᠶᠣᠯ ᠢ ᠬᠠᠮᠠᠭᠠᠯᠠᠨ ᠬᠥᠭᠵᠢᠭᠦᠯᠬᠦ ᠶᠢᠨ ᠲᠥᠯᠦᠭᠡ ᠶᠡᠬᠡ ᠠᠵᠢᠯ ᠢ ᠶᠠᠪᠤᠭᠤᠯᠵᠤ ᠪᠠᠶᠢᠨ᠎ᠠ ᠃ ᠡᠨᠡ ᠨᠢ ᠦᠨᠳᠦᠰᠦᠲᠡᠨ ᠦ ᠰᠤᠷᠭᠠᠯ ᠬᠦᠮᠦᠵᠢᠯ ᠢ ᠳᠡᠭᠡᠭᠰᠢᠯᠡᠭᠦᠯᠬᠦ ᠳᠦ ᠴᠢᠬᠤᠯᠠ ᠠᠴᠠ ᠤᠯᠤᠰ ᠲᠥᠷᠦ ᠶᠢᠨ ᠪᠣᠳᠯᠣᠭ᠎ᠠ ᠶᠢ ᠬᠡᠷᠡᠭᠵᠢᠭᠦᠯᠬᠦ ᠃ ᠮᠣᠩᠭᠣᠯ ᠦᠨᠳᠦᠰᠦᠲᠡᠨ ᠦ ᠦᠯᠡᠮᠵᠢ ᠰᠣᠶᠣᠯ ᠢ ᠬᠠᠮᠠᠭᠠᠯᠠᠨ ᠬᠥᠭᠵᠢᠭᠦᠯᠬᠦ ᠶᠢᠨ ᠲᠥᠯᠦᠭᠡ ᠶᠡᠬᠡ ᠠᠵᠢᠯ ᠢ ᠶᠠᠪᠤᠭᠤᠯᠵᠤ ᠪᠠᠶᠢᠨ᠎ᠠ ᠃ ᠡᠨᠡ ᠨᠢ ᠦᠨᠳᠦᠰᠦᠲᠡᠨ ᠦ ᠰᠤᠷᠭᠠᠯ ᠬᠦᠮᠦᠵᠢᠯ ᠢ ᠳᠡᠭᠡᠭᠰᠢᠯᠡᠭᠦᠯᠬᠦ ᠳᠦ ᠴᠢᠬᠤᠯᠠ ᠠᠴᠠ ᠤᠯᠤᠰ ᠲᠥᠷᠦ ᠶᠢᠨ ᠪᠣᠳᠯᠣᠭ᠎ᠠ ᠶᠢ ᠬᠡᠷᠡᠭᠵᠢᠭᠦᠯᠬᠦ ᠃ ᠮᠣᠩᠭᠣᠯ ᠦᠨᠳᠦᠰᠦᠲᠡᠨ ᠦ ᠦᠯᠡᠮᠵᠢ ᠰᠣᠶᠣᠯ ᠢ ᠬᠠᠮᠠᠭᠠᠯᠠᠨ ᠬᠥᠭᠵᠢᠭᠦᠯᠬᠦ ᠶᠢᠨ ᠲᠥᠯᠦᠭᠡ ᠶᠡᠬᠡ ᠠᠵᠢᠯ ᠢ ᠶᠠᠪᠤᠭᠤᠯᠵᠤ ᠪᠠᠶᠢᠨ᠎ᠠ ᠃ ᠡᠨᠡ ᠨᠢ ᠦᠨᠳᠦᠰᠦᠲᠡᠨ ᠦ ᠰᠤᠷᠭᠠᠯ ᠬᠦᠮᠦᠵᠢᠯ ᠢ ᠳᠡᠭᠡᠭᠰᠢᠯᠡᠭᠦᠯᠬᠦ ᠳᠦ ᠴᠢᠬᠤᠯᠠ ᠠᠴᠠ ᠤᠯᠤᠰ ᠲᠥᠷᠦ ᠶᠢᠨ ᠪᠣᠳᠯᠣᠭ᠎ᠠ ᠶᠢ ᠬᠡᠷᠡᠭᠵᠢᠭᠦᠯᠬᠦ ᠃ ᠮᠣᠩᠭᠣᠯ ᠦᠨᠳᠦᠰᠦᠲᠡᠨ ᠦ ᠦᠯᠡᠮᠵᠢ ᠰᠣᠶᠣᠯ ᠢ ᠬᠠᠮᠠᠭᠠᠯᠠᠨ ᠬᠥᠭᠵᠢᠭᠦᠯᠬᠦ ᠶᠢᠨ ᠲᠥᠯᠦᠭᠡ ᠶᠡᠬᠡ ᠠᠵᠢᠯ ᠢ ᠶᠠᠪᠤᠭᠤᠯᠵᠤ ᠪᠠᠶᠢᠨ᠎ᠠ ᠃ ᠡᠨᠡ ᠨᠢ ᠦᠨᠳᠦᠰᠦᠲᠡᠨ ᠦ ᠰᠤᠷᠭᠠᠯ ᠬᠦᠮᠦᠵᠢᠯ ᠢ ᠳᠡᠭᠡᠭᠰᠢᠯᠡᠭᠦᠯᠬᠦ ᠳᠦ ᠴᠢᠬᠤᠯᠠ ᠠᠴᠠ ᠤᠯᠤᠰ ᠲᠥᠷᠦ ᠶᠢᠨ ᠪᠣᠳᠯᠣᠭ᠎ᠠ ᠶᠢ ᠬᠡᠷᠡᠭᠵᠢᠭᠦᠯᠬᠦ ᠃ ᠮᠣᠩᠭᠣᠯ ᠦᠨᠳᠦᠰᠦᠲᠡᠨ ᠦ ᠦᠯᠡᠮᠵᠢ ᠰᠣᠶᠣᠯ ᠢ ᠬᠠᠮᠠᠭᠠᠯᠠᠨ ᠬᠥᠭᠵᠢᠭᠦᠯᠬᠦ ᠶᠢᠨ ᠲᠥᠯᠦᠭᠡ ᠶᠡᠬᠡ ᠠᠵᠢᠯ ᠢ ᠶᠠᠪᠤᠭᠤᠯᠵᠤ ᠪᠠᠶᠢᠨ᠎ᠠ ᠃ ᠡᠨᠡ ᠨᠢ ᠦᠨᠳᠦᠰᠦᠲᠡᠨ ᠦ ᠰᠤᠷᠭᠠᠯ ᠬᠦᠮᠦᠵᠢᠯ ᠢ ᠳᠡᠭᠡᠭᠰᠢᠯᠡᠭᠦᠯᠬᠦ ᠳᠦ ᠴᠢᠬᠤᠯᠠ ᠠᠴᠠ ᠤᠯᠤᠰ ᠲᠥᠷᠦ ᠶᠢᠨ ᠪᠣᠳᠯᠣᠭ᠎ᠠ ᠶᠢ ᠬᠡᠷᠡᠭᠵᠢᠭᠦᠯᠬᠦ ᠃ ᠮᠣᠩᠭᠣᠯ ᠦᠨᠳᠦᠰᠦᠲᠡᠨ ᠦ ᠦᠯᠡᠮᠵᠢ ᠰᠣᠶᠣᠯ ᠢ ᠬᠠᠮᠠᠭᠠᠯᠠᠨ ᠬᠥᠭᠵᠢᠭᠦᠯᠬᠦ ᠶᠢᠨ ᠲᠥᠯᠦᠭᠡ ᠶᠡᠬᠡ ᠠᠵᠢᠯ ᠢ ᠶᠠᠪᠤᠭᠤᠯᠵᠤ ᠪᠠᠶᠢᠨ᠎ᠠ ᠃ ᠡᠨᠡ ᠨᠢ ᠦᠨᠳᠦᠰᠦᠲᠡᠨ ᠦ ᠰᠤᠷᠭᠠᠯ ᠬᠦᠮᠦᠵᠢᠯ ᠢ ᠳᠡᠭᠡᠭᠰᠢᠯᠡᠭᠦᠯᠬᠦ ᠳᠦ ᠴᠢᠬᠤᠯᠠ ᠠᠴᠠ ᠤᠯᠤᠰ ᠲᠥᠷᠦ ᠶᠢᠨ ᠪᠣᠳᠯᠣᠭ᠎ᠠ ᠶᠢ ᠬᠡᠷᠡᠭᠵᠢᠭᠦᠯᠬᠦ ᠃ ᠮᠣᠩᠭᠣᠯ ᠦᠨᠳᠦᠰᠦᠲᠡᠨ ᠦ ᠦᠯᠡᠮᠵᠢ ᠰᠣᠶᠣᠯ ᠢ ᠬᠠᠮᠠᠭᠠᠯᠠᠨ ᠬᠥᠭᠵᠢᠭᠦᠯᠬᠦ ᠶᠢᠨ ᠲᠥᠯᠦᠭᠡ ᠶᠡᠬᠡ ᠠᠵᠢᠯ ᠢ ᠶᠠᠪᠤᠭᠤᠯᠵᠤ ᠪᠠᠶᠢᠨ᠎ᠠ ᠃ ᠡᠨᠡ ᠨᠢ ᠦᠨᠳᠦᠰᠦᠲᠡᠨ ᠦ ᠰᠤᠷᠭᠠᠯ ᠬᠦᠮᠦᠵᠢᠯ ᠢ ᠳᠡᠭᠡᠭᠰᠢᠯᠡᠭᠦᠯᠬᠦ ᠳᠦ ᠴᠢᠬᠤᠯᠠ ᠠᠴᠠ ᠤᠯᠤᠰ ᠲᠥᠷᠦ ᠶᠢᠨ ᠪᠣᠳᠯᠣᠭ᠎ᠠ ᠶᠢ ᠬᠡᠷᠡᠭᠵᠢᠭᠦᠯᠬᠦ ᠃ ᠮᠣᠩᠭᠣᠯ ᠦᠨᠳᠦᠰᠦᠲᠡᠨ ᠦ ᠦᠯᠡᠮᠵᠢ ᠰᠣᠶᠣᠯ ᠢ ᠬᠠᠮᠠᠭᠠᠯᠠᠨ ᠬᠥᠭᠵᠢᠭᠦᠯᠬᠦ ᠶᠢᠨ ᠲᠥᠯᠦᠭᠡ ᠶᠡᠬᠡ ᠠᠵᠢᠯ ᠢ ᠶᠠᠪᠤᠭᠤᠯᠵᠤ ᠪᠠᠶᠢᠨ᠎ᠠ ᠃ ᠡᠨᠡ ᠨᠢ ᠦᠨᠳᠦᠰᠦᠲᠡᠨ ᠦ ᠰᠤᠷᠭᠠᠯ ᠬᠦᠮᠦᠵᠢᠯ ᠢ ᠳᠡᠭᠡᠭᠰᠢᠯᠡᠭᠦᠯᠬᠦ ᠳᠦ ᠴᠢᠬᠤᠯᠠ ᠠᠴᠠ ᠤᠯᠤᠰ ᠲᠥᠷᠦ ᠶᠢᠨ ᠪᠣᠳᠯᠣᠭ᠎ᠠ ᠶᠢ ᠬᠡᠷᠡᠭᠵᠢᠭᠦᠯᠬᠦ ᠃ ᠮᠣᠩᠭᠣᠯ ᠦᠨᠳᠦᠰᠦᠲᠡᠨ ᠦ ᠦᠯᠡᠮᠵᠢ ᠰᠣᠶᠣᠯ ᠢ ᠬᠠᠮᠠᠭᠠᠯᠠᠨ ᠬᠥᠭᠵᠢᠭᠦᠯᠬᠦ ᠶᠢᠨ ᠲᠥᠯᠦᠭᠡ ᠶᠡᠬᠡ ᠠᠵᠢᠯ ᠢ ᠶᠠᠪᠤᠭᠤᠯᠵᠤ ᠪᠠᠶᠢᠨ᠎ᠠ ᠃ ᠡᠨᠡ ᠨᠢ ᠦᠨᠳᠦᠰᠦᠲᠡᠨ ᠦ ᠰᠤᠷᠭᠠᠯ ᠬᠦᠮᠦᠵᠢᠯ ᠢ ᠳᠡᠭᠡᠭᠰᠢᠯᠡᠭᠦᠯᠬᠦ ᠳᠦ ᠴᠢᠬᠤᠯᠠ ᠠᠴᠠ ᠤᠯᠤᠰ ᠲᠥᠷᠦ ᠶᠢᠨ ᠪᠣᠳᠯᠣᠭ᠎ᠠ ᠶᠢ ᠬᠡᠷᠡᠭᠵᠢᠭᠦᠯᠬᠦ ᠃ ᠮᠣᠩᠭᠣᠯ ᠦᠨᠳᠦᠰᠦᠲᠡᠨ ᠦ ᠦᠯᠡᠮᠵᠢ ᠰᠣᠶᠣᠯ ᠢ ᠬᠠᠮᠠᠭᠠᠯᠠᠨ ᠬᠥᠭᠵᠢᠭᠦᠯᠬᠦ ᠶᠢᠨ ᠲᠥᠯᠦᠭᠡ ᠶᠡᠬᠡ ᠠᠵᠢᠯ ᠢ ᠶᠠᠪᠤᠭᠤᠯᠵᠤ ᠪᠠᠶᠢᠨ᠎ᠠ ᠃ ᠡᠨᠡ ᠨᠢ ᠦᠨᠳᠦᠰᠦᠲᠡᠨ ᠦ ᠰᠤᠷᠭᠠᠯ ᠬᠦᠮᠦᠵᠢᠯ ᠢ ᠳᠡᠭᠡᠭᠰᠢᠯᠡᠭᠦᠯᠬᠦ ᠳᠦ ᠴᠢᠬᠤᠯᠠ ᠠᠴᠠ ᠤᠯᠤᠰ ᠲᠥᠷᠦ ᠶᠢᠨ ᠪᠣᠳᠯᠣᠭ᠎ᠠ ᠶᠢ ᠬᠡᠷᠡᠭᠵᠢᠭᠦᠯᠬᠦ ᠃ ᠮᠣᠩᠭᠣᠯ ᠦᠨᠳᠦᠰᠦᠲᠡᠨ ᠦ ᠦᠯᠡᠮᠵᠢ ᠰᠣᠶᠣᠯ ᠢ ᠬᠠᠮᠠᠭᠠᠯᠠᠨ ᠬᠥᠭᠵᠢᠭᠦᠯᠬᠦ ᠶᠢᠨ ᠲᠥᠯᠦᠭᠡ ᠶᠡᠬᠡ ᠠᠵᠢᠯ ᠢ ᠶᠠᠪᠤᠭᠤᠯᠵᠤ ᠪᠠᠶᠢᠨ᠎ᠠ ᠃ ᠡᠨᠡ ᠨᠢ ᠦᠨᠳᠦᠰᠦᠲᠡᠨ ᠦ ᠰᠤᠷᠭᠠᠯ ᠬᠦᠮᠦᠵᠢᠯ ᠢ ᠳᠡᠭᠡᠭᠰᠢᠯᠡᠭᠦᠯᠬᠦ ᠳᠦ ᠴᠢᠬᠤᠯᠠ ᠠᠴᠠ ᠤᠯᠤᠰ ᠲᠥᠷᠦ ᠶᠢᠨ ᠪᠣᠳᠯᠣᠭ᠎ᠠ ᠶᠢ ᠬᠡᠷᠡᠭᠵᠢᠭᠦᠯᠬᠦ ᠃ ᠮᠣᠩᠭᠣᠯ ᠦᠨᠳᠦᠰᠦᠲᠡᠨ ᠦ ᠦᠯᠡᠮᠵᠢ ᠰᠣᠶᠣᠯ ᠢ ᠬᠠᠮᠠᠭᠠᠯᠠᠨ ᠬᠥᠭᠵᠢᠭᠦᠯᠬᠦ ᠶᠢᠨ ᠲᠥᠯᠦᠭᠡ ᠶᠡᠬᠡ ᠠᠵᠢᠯ ᠢ ᠶᠠᠪᠤᠭᠤᠯᠵᠤ ᠪᠠᠶᠢᠨ᠎ᠠ ᠃ ᠡᠨᠡ ᠨᠢ ᠦᠨᠳᠦᠰᠦᠲᠡᠨ ᠦ ᠰᠤᠷᠭᠠᠯ ᠬᠦᠮᠦᠵᠢᠯ ᠢ ᠳᠡᠭᠡᠭᠰᠢᠯᠡᠭᠦᠯᠬᠦ ᠳᠦ ᠴᠢᠬᠤᠯᠠ ᠠᠴᠠ ᠤᠯᠤᠰ ᠲᠥᠷᠦ ᠶᠢᠨ ᠪᠣᠳᠯᠣᠭ᠎ᠠ ᠶᠢ ᠬᠡᠷᠡᠭᠵᠢᠭᠦᠯᠬᠦ ᠃ ᠮᠣᠩᠭᠣᠯ ᠦᠨᠳᠦᠰᠦᠲᠡᠨ ᠦ ᠦᠯᠡᠮᠵᠢ ᠰᠣᠶᠣᠯ ᠢ ᠬᠠᠮᠠᠭᠠᠯᠠᠨ ᠬᠥᠭᠵᠢᠭᠦᠯᠬᠦ ᠶᠢᠨ ᠲᠥᠯᠦᠭᠡ ᠶᠡᠬᠡ ᠠᠵᠢᠯ ᠢ ᠶᠠᠪᠤᠭᠤᠯᠵᠤ ᠪᠠᠶᠢᠨ᠎ᠠ ᠃ ᠡᠨᠡ ᠨᠢ ᠦᠨᠳᠦᠰᠦᠲᠡᠨ ᠦ ᠰᠤᠷᠭᠠᠯ ᠬᠦᠮᠦᠵᠢᠯ ᠢ ᠳᠡᠭᠡᠭᠰᠢᠯᠡᠭᠦᠯᠬᠦ ᠳᠦ ᠴᠢᠬᠤᠯᠠ ᠠᠴᠠ ᠤᠯᠤᠰ ᠲᠥᠷᠦ ᠶᠢᠨ ᠪᠣᠳᠯᠣᠭ᠎ᠠ ᠶᠢ ᠬᠡᠷᠡᠭᠵᠢᠭᠦᠯᠬᠦ ᠃ ᠮᠣᠩᠭᠣᠯ ᠦᠨᠳᠦᠰᠦᠲᠡᠨ ᠦ ᠦᠯᠡᠮᠵᠢ ᠰᠣᠶᠣᠯ ᠢ ᠬᠠᠮᠠᠭᠠᠯᠠᠨ ᠬᠥᠭᠵᠢᠭᠦᠯᠬᠦ ᠶᠢᠨ ᠲᠥᠯᠦᠭᠡ ᠶᠡᠬᠡ ᠠᠵᠢᠯ ᠢ ᠶᠠᠪᠤᠭᠤᠯᠵᠤ ᠪᠠᠶᠢᠨ᠎ᠠ ᠃ ᠡᠨᠡ ᠨᠢ ᠦᠨᠳᠦᠰᠦᠲᠡᠨ ᠦ ᠰᠤᠷᠭᠠᠯ ᠬᠦᠮᠦᠵᠢᠯ ᠢ ᠳᠡᠭᠡᠭᠰᠢᠯᠡᠭᠦᠯᠬᠦ ᠳᠦ ᠴᠢᠬᠤᠯᠠ ᠠᠴᠠ ᠤᠯᠤᠰ ᠲᠥᠷᠦ ᠶᠢᠨ ᠪᠣᠳᠯᠣᠭ᠎ᠠ ᠶᠢ ᠬᠡᠷᠡᠭᠵᠢᠭᠦᠯᠬᠦ ᠃ ᠮᠣᠩᠭᠣᠯ ᠦᠨᠳᠦᠰᠦᠲᠡᠨ ᠦ ᠦᠯᠡᠮᠵᠢ ᠰᠣᠶᠣᠯ ᠢ ᠬᠠᠮᠠᠭᠠᠯᠠᠨ ᠬᠥᠭᠵᠢᠭᠦᠯᠬᠦ ᠶᠢᠨ ᠲᠥᠯᠦᠭᠡ ᠶᠡᠬᠡ ᠠᠵᠢᠯ ᠢ ᠶᠠᠪᠤᠭᠤᠯᠵᠤ ᠪᠠᠶᠢᠨ᠎ᠠ ᠃ ᠡᠨᠡ ᠨᠢ ᠦᠨᠳᠦᠰᠦᠲᠡᠨ ᠦ ᠰᠤᠷᠭᠠᠯ ᠬᠦᠮᠦᠵᠢᠯ ᠢ ᠳᠡᠭᠡᠭᠰᠢᠯᠡᠭᠦᠯᠬᠦ ᠳᠦ ᠴᠢᠬᠤᠯᠠ ᠠᠴᠠ ᠤᠯᠤᠰ ᠲᠥᠷᠦ ᠶᠢᠨ ᠪᠣᠳᠯᠣᠭ᠎ᠠ ᠶᠢ ᠬᠡᠷᠡᠭᠵᠢᠭᠦᠯᠬᠦ ᠃ ᠮᠣᠩᠭᠣᠯ ᠦᠨᠳᠦᠰᠦᠲᠡᠨ ᠦ ᠦᠯᠡᠮᠵᠢ ᠰᠣᠶᠣᠯ ᠢ ᠬᠠᠮᠠᠭᠠᠯᠠᠨ ᠬᠥᠭᠵᠢᠭᠦᠯᠬᠦ ᠶᠢᠨ ᠲᠥᠯᠦᠭᠡ ᠶᠡᠬᠡ ᠠᠵᠢᠯ ᠢ ᠶᠠᠪᠤᠭᠤᠯᠵᠤ ᠪᠠᠶᠢᠨ᠎ᠠ ᠃ ᠡᠨᠡ ᠨᠢ ᠦᠨᠳᠦᠰᠦᠲᠡᠨ ᠦ ᠰᠤᠷᠭᠠᠯ ᠬᠦᠮᠦᠵᠢᠯ ᠢ ᠳᠡᠭᠡᠭᠰᠢᠯᠡᠭᠦᠯᠬᠦ ᠳᠦ ᠴᠢᠬᠤᠯᠠ ᠠᠴᠠ ᠤᠯᠤᠰ ᠲᠥᠷᠦ ᠶᠢᠨ ᠪᠣᠳᠯᠣᠭ᠎ᠠ ᠶᠢ ᠬᠡᠷᠡᠭᠵᠢᠭᠦᠯᠬᠦ ᠃ ᠮᠣᠩᠭᠣᠯ ᠦᠨᠳᠦᠰᠦᠲᠡᠨ ᠦ ᠦᠯᠡᠮᠵᠢ ᠰᠣᠶᠣᠯ ᠢ ᠬᠠᠮᠠᠭᠠᠯᠠᠨ ᠬᠥᠭᠵᠢᠭᠦᠯᠬᠦ ᠶᠢᠨ ᠲᠥᠯᠦᠭᠡ ᠶᠡᠬᠡ ᠠᠵᠢᠯ ᠢ ᠶᠠᠪᠤᠭᠤᠯᠵᠤ ᠪᠠᠶᠢᠨ᠎ᠠ ᠃ ᠡᠨᠡ ᠨᠢ ᠦᠨᠳᠦᠰᠦᠲᠡᠨ ᠦ ᠰᠤᠷᠭᠠᠯ ᠬᠦᠮᠦᠵᠢᠯ ᠢ ᠳᠡᠭᠡᠭᠰᠢᠯᠡᠭᠦᠯᠬᠦ ᠳᠦ ᠴᠢᠬᠤᠯᠠ ᠠᠴᠠ ᠤᠯᠤᠰ ᠲᠥᠷᠦ ᠶᠢᠨ ᠪᠣᠳᠯᠣᠭ᠎ᠠ ᠶᠢ ᠬᠡᠷᠡᠭᠵᠢᠭᠦᠯᠬᠦ ᠃ ᠮᠣᠩᠭᠣᠯ ᠦᠨᠳᠦᠰᠦᠲᠡᠨ ᠦ ᠦᠯᠡᠮᠵᠢ ᠰᠣᠶᠣᠯ ᠢ ᠬᠠᠮᠠᠭᠠᠯᠠᠨ ᠬᠥᠭᠵᠢᠭᠦᠯᠬᠦ ᠶᠢᠨ ᠲᠥᠯᠦᠭᠡ ᠶᠡᠬᠡ ᠠᠵᠢᠯ ᠢ ᠶᠠᠪᠤᠭᠤᠯᠵᠤ ᠪᠠᠶᠢᠨ᠎ᠠ ᠃ ᠡᠨᠡ ᠨᠢ ᠦᠨᠳᠦᠰᠦᠲᠡᠨ ᠦ ᠰᠤᠷᠭᠠᠯ ᠬᠦᠮᠦᠵᠢᠯ ᠢ ᠳᠡᠭᠡᠭᠰᠢᠯᠡᠭᠦᠯᠬᠦ ᠳᠦ ᠴᠢᠬᠤᠯᠠ ᠠᠴᠠ ᠤᠯᠤᠰ ᠲᠥᠷᠦ ᠶᠢᠨ ᠪᠣᠳᠯᠣᠭ᠎ᠠ ᠶᠢ ᠬᠡᠷᠡᠭᠵᠢᠭᠦᠯᠬᠦ ᠃ ᠮᠣᠩᠭᠣᠯ ᠦᠨᠳᠦᠰᠦᠲᠡᠨ ᠦ ᠦᠯᠡᠮᠵᠢ ᠰᠣᠶᠣᠯ ᠢ ᠬᠠᠮᠠᠭᠠᠯᠠᠨ ᠬᠥᠭᠵᠢᠭᠦᠯᠬᠦ ᠶᠢᠨ ᠲᠥᠯᠦᠭᠡ ᠶᠡᠬᠡ ᠠᠵᠢᠯ ᠢ ᠶᠠᠪᠤᠭᠤᠯᠵᠤ ᠪᠠᠶᠢᠨ᠎ᠠ ᠃ ᠡᠨᠡ ᠨᠢ ᠦᠨᠳᠦᠰᠦᠲᠡᠨ ᠦ ᠰᠤᠷᠭᠠᠯ ᠬᠦᠮᠦᠵᠢᠯ ᠢ ᠳᠡᠭᠡᠭᠰᠢᠯᠡᠭᠦᠯᠬᠦ ᠳᠦ ᠴᠢᠬᠤᠯᠠ ᠠᠴᠠ ᠤᠯᠤᠰ ᠲᠥᠷᠦ ᠶᠢᠨ ᠪᠣᠳᠯᠣᠭ᠎ᠠ ᠶᠢ ᠬᠡᠷᠡᠭᠵᠢᠭᠦᠯᠬᠦ ᠃ ᠮᠣᠩᠭᠣᠯ ᠦᠨᠳᠦᠰᠦᠲᠡᠨ ᠦ ᠦᠯᠡᠮᠵᠢ ᠰᠣᠶᠣᠯ ᠢ ᠬᠠᠮᠠᠭᠠᠯᠠᠨ ᠬᠥᠭᠵᠢᠭᠦᠯᠬᠦ ᠶᠢᠨ ᠲᠥᠯᠦᠭᠡ ᠶᠡᠬᠡ ᠠᠵᠢᠯ ᠢ ᠶᠠᠪᠤᠭᠤᠯᠵᠤ ᠪᠠᠶᠢᠨ᠎ᠠ ᠃ ᠡᠨᠡ ᠨᠢ ᠦᠨᠳᠦᠰᠦᠲᠡᠨ ᠦ ᠰᠤᠷᠭᠠᠯ ᠬᠦᠮᠦᠵᠢᠯ ᠢ ᠳᠡᠭᠡᠭᠰᠢᠯᠡᠭᠦᠯᠬᠦ ᠳᠦ ᠴᠢᠬᠤᠯᠠ ᠠᠴᠠ ᠤᠯᠤᠰ ᠲᠥᠷᠦ ᠶᠢᠨ ᠪᠣᠳᠯᠣᠭ᠎ᠠ ᠶᠢ ᠬᠡᠷᠡᠭᠵᠢᠭᠦᠯᠬᠦ ᠃ ᠮᠣᠩᠭᠣᠯ ᠦᠨᠳᠦᠰᠦᠲᠡᠨ ᠦ ᠦᠯᠡᠮᠵᠢ ᠰᠣᠶᠣᠯ ᠢ ᠬᠠᠮᠠᠭᠠᠯᠠᠨ ᠬᠥᠭᠵᠢᠭᠦᠯᠬᠦ ᠶᠢᠨ ᠲᠥᠯᠦᠭᠡ ᠶᠡᠬᠡ ᠠᠵᠢᠯ ᠢ ᠶᠠᠪᠤᠭᠤᠯᠵᠤ ᠪᠠᠶᠢᠨ᠎ᠠ ᠃ ᠡᠨᠡ ᠨᠢ ᠦᠨᠳᠦᠰᠦᠲᠡᠨ ᠦ ᠰᠤᠷᠭᠠᠯ ᠬᠦᠮᠦᠵᠢᠯ ᠢ ᠳᠡᠭᠡᠭᠰᠢᠯᠡᠭᠦᠯᠬᠦ ᠳᠦ ᠴᠢᠬᠤᠯᠠ ᠠᠴᠠ ᠤᠯᠤᠰ ᠲᠥᠷᠦ ᠶᠢᠨ ᠪᠣᠳᠯᠣᠭ᠎ᠠ ᠶᠢ ᠬᠡᠷᠡᠭᠵᠢᠭᠦᠯᠬᠦ ᠃ ᠮᠣᠩᠭᠣᠯ ᠦᠨᠳᠦᠰᠦᠲᠡᠨ ᠦ ᠦᠯᠡᠮᠵᠢ ᠰᠣᠶᠣᠯ ᠢ ᠬᠠᠮᠠᠭᠠᠯᠠᠨ ᠬᠥᠭᠵᠢᠭᠦᠯᠬᠦ ᠶᠢᠨ ᠲᠥᠯᠦᠭᠡ ᠶᠡᠬᠡ ᠠᠵᠢᠯ ᠢ ᠶᠠᠪᠤᠭᠤᠯᠵᠤ ᠪᠠᠶᠢᠨ᠎ᠠ ᠃ ᠡᠨᠡ ᠨᠢ ᠦᠨᠳᠦᠰᠦᠲᠡᠨ ᠦ ᠰᠤᠷᠭᠠᠯ ᠬᠦᠮᠦᠵᠢᠯ ᠢ ᠳᠡᠭᠡᠭᠰᠢᠯᠡᠭᠦᠯᠬᠦ ᠳᠦ ᠴᠢᠬᠤᠯᠠ ᠠᠴᠠ ᠤᠯᠤᠰ ᠲᠥᠷᠦ ᠶᠢᠨ ᠪᠣᠳᠯᠣᠭ᠎ᠠ ᠶᠢ ᠬᠡᠷᠡᠭᠵᠢᠭᠦᠯᠬᠦ ᠃ ᠮᠣᠩᠭᠣᠯ ᠦᠨᠳᠦᠰᠦᠲᠡᠨ ᠦ ᠦᠯᠡᠮᠵᠢ ᠰᠣᠶᠣᠯ ᠢ ᠬᠠᠮᠠᠭᠠᠯᠠᠨ ᠬᠥᠭᠵᠢᠭᠦᠯᠬᠦ ᠶᠢᠨ ᠲᠥᠯᠦᠭᠡ ᠶᠡᠬᠡ ᠠᠵᠢᠯ ᠢ ᠶᠠᠪᠤᠭᠤᠯᠵᠤ ᠪᠠᠶᠢᠨ᠎ᠠ ᠃ ᠡᠨᠡ ᠨᠢ ᠦᠨᠳᠦᠰᠦᠲᠡᠨ ᠦ ᠰᠤᠷᠭᠠᠯ ᠬᠦᠮᠦᠵᠢᠯ ᠢ ᠳᠡᠭᠡᠭᠰᠢᠯᠡᠭᠦᠯᠬᠦ ᠳᠦ ᠴᠢᠬᠤᠯᠠ ᠠᠴᠠ ᠤᠯᠤᠰ ᠲᠥᠷᠦ ᠶᠢᠨ ᠪᠣᠳᠯᠣᠭ᠎ᠠ ᠶᠢ ᠬᠡᠷᠡᠭᠵᠢᠭᠦᠯᠬᠦ ᠃ ᠮᠣᠩᠭᠣᠯ ᠦᠨᠳᠦᠰᠦᠲᠡᠨ ᠦ ᠦᠯᠡᠮᠵᠢ ᠰᠣᠶᠣᠯ ᠢ ᠬᠠᠮᠠᠭᠠᠯᠠᠨ ᠬᠥᠭᠵᠢᠭᠦᠯᠬᠦ ᠶᠢᠨ ᠲᠥᠯᠦᠭᠡ ᠶᠡᠬᠡ ᠠᠵᠢᠯ ᠢ ᠶᠠᠪᠤᠭᠤᠯᠵᠤ ᠪᠠᠶᠢᠨ᠎ᠠ ᠃ ᠡᠨᠡ ᠨᠢ ᠦᠨᠳᠦᠰᠦᠲᠡᠨ ᠦ ᠰᠤᠷᠭᠠᠯ ᠬᠦᠮᠦᠵᠢᠯ ᠢ ᠳᠡᠭᠡᠭᠰᠢᠯᠡᠭᠦᠯᠬᠦ ᠳᠦ ᠴᠢᠬᠤᠯᠠ ᠠᠴᠠ ᠤᠯᠤᠰ ᠲᠥᠷᠦ ᠶᠢᠨ ᠪᠣᠳᠯᠣᠭ᠎ᠠ ᠶᠢ ᠬᠡᠷᠡᠭᠵᠢᠭᠦᠯᠬᠦ ᠃ ᠮᠣᠩᠭᠣᠯ ᠦᠨᠳᠦᠰᠦᠲᠡᠨ ᠦ ᠦᠯᠡᠮᠵᠢ ᠰᠣᠶᠣᠯ ᠢ ᠬᠠᠮᠠᠭᠠᠯᠠᠨ ᠬᠥᠭᠵᠢᠭᠦᠯᠬᠦ ᠶᠢᠨ ᠲᠥᠯᠦᠭᠡ ᠶᠡᠬᠡ ᠠᠵᠢᠯ ᠢ ᠶᠠᠪᠤᠭᠤᠯᠵᠤ ᠪᠠᠶᠢᠨ᠎ᠠ ᠃ ᠡᠨᠡ ᠨᠢ ᠦᠨᠳᠦᠰᠦᠲᠡᠨ ᠦ ᠰᠤᠷᠭᠠᠯ ᠬᠦᠮᠦᠵᠢᠯ ᠢ ᠳᠡᠭᠡᠭᠰᠢᠯᠡᠭᠦᠯᠬᠦ ᠳᠦ ᠴᠢᠬᠤᠯᠠ ᠠᠴᠠ ᠤᠯᠤᠰ ᠲᠥᠷᠦ ᠶᠢᠨ ᠪᠣᠳᠯᠣᠭ᠎ᠠ ᠶᠢ ᠬᠡᠷᠡᠭᠵᠢᠭᠦᠯᠬᠦ ᠃ ᠮᠣᠩᠭᠣᠯ ᠦᠨᠳᠦᠰᠦᠲᠡᠨ ᠦ ᠦᠯᠡᠮᠵᠢ ᠰᠣᠶᠣᠯ ᠢ ᠬᠠᠮᠠᠭᠠᠯᠠᠨ ᠬᠥᠭᠵᠢᠭᠦᠯᠬᠦ ᠶᠢᠨ ᠲᠥᠯᠦᠭᠡ ᠶᠡᠬᠡ ᠠᠵᠢᠯ ᠢ ᠶᠠᠪᠤᠭᠤᠯᠵᠤ ᠪᠠᠶᠢᠨ᠎ᠠ ᠃ ᠡᠨᠡ ᠨᠢ ᠦᠨᠳᠦᠰᠦᠲᠡᠨ ᠦ ᠰᠤᠷᠭᠠᠯ ᠬᠦᠮᠦᠵᠢᠯ ᠢ ᠳᠡᠭᠡᠭᠰᠢᠯᠡᠭᠦᠯᠬᠦ ᠳᠦ ᠴᠢᠬᠤᠯᠠ ᠠᠴᠠ ᠤᠯᠤᠰ ᠲᠥᠷᠦ ᠶᠢᠨ ᠪᠣᠳᠯᠣᠭ᠎ᠠ ᠶᠢ ᠬᠡᠷᠡᠭᠵᠢᠭᠦᠯᠬᠦ ᠃ ᠮᠣᠩᠭᠣᠯ ᠦᠨᠳᠦᠰᠦᠲᠡᠨ ᠦ ᠦᠯᠡᠮᠵᠢ ᠰᠣᠶᠣᠯ ᠢ ᠬᠠᠮᠠᠭᠠᠯᠠᠨ ᠬᠥᠭᠵᠢᠭᠦᠯᠬᠦ ᠶᠢᠨ ᠲᠥᠯᠦᠭᠡ ᠶᠡᠬᠡ ᠠᠵᠢᠯ ᠢ ᠶᠠᠪᠤᠭᠤᠯᠵᠤ ᠪᠠᠶᠢᠨ᠎ᠠ ᠃ ᠡᠨᠡ ᠨᠢ ᠦᠨᠳᠦᠰᠦᠲᠡᠨ ᠦ ᠰᠤᠷᠭᠠᠯ ᠬᠦᠮᠦᠵᠢᠯ ᠢ ᠳᠡᠭᠡᠭᠰᠢᠯᠡᠭᠦᠯᠬᠦ ᠳᠦ ᠴᠢᠬᠤᠯᠠ ᠠᠴᠠ ᠤᠯᠤᠰ ᠲᠥᠷᠦ ᠶᠢᠨ ᠪᠣᠳᠯᠣᠭ᠎ᠠ ᠶᠢ ᠬᠡᠷᠡᠭᠵᠢᠭᠦᠯᠬᠦ ᠃ ᠮᠣᠩᠭᠣᠯ ᠦᠨᠳᠦᠰᠦᠲᠡᠨ ᠦ ᠦᠯᠡᠮᠵᠢ ᠰᠣᠶᠣᠯ ᠢ ᠬᠠᠮᠠᠭᠠᠯᠠᠨ ᠬᠥᠭᠵᠢᠭᠦᠯᠬᠦ ᠶᠢᠨ ᠲᠥᠯᠦᠭᠡ ᠶᠡᠬᠡ ᠠᠵᠢᠯ ᠢ ᠶᠠᠪᠤᠭᠤᠯᠵᠤ ᠪᠠᠶᠢᠨ᠎ᠠ ᠃ ᠡᠨᠡ ᠨᠢ ᠦᠨᠳᠦᠰᠦᠲᠡᠨ ᠦ ᠰᠤᠷᠭᠠᠯ ᠬᠦᠮᠦᠵᠢᠯ ᠢ ᠳᠡᠭᠡᠭᠰᠢᠯᠡᠭᠦᠯᠬᠦ ᠳᠦ ᠴᠢᠬᠤᠯᠠ ᠠᠴᠠ ᠤᠯᠤᠰ ᠲᠥᠷᠦ ᠶᠢᠨ ᠪᠣᠳᠯᠣᠭ᠎ᠠ ᠶᠢ ᠬᠡᠷᠡᠭᠵᠢᠭᠦᠯᠬᠦ ᠃ ᠮᠣᠩᠭᠣᠯ ᠦᠨᠳᠦᠰᠦᠲᠡᠨ ᠦ ᠦᠯᠡᠮᠵᠢ ᠰᠣᠶᠣᠯ ᠢ ᠬᠠᠮᠠᠭᠠᠯᠠᠨ ᠬᠥᠭᠵᠢᠭᠦᠯᠬᠦ ᠶᠢᠨ ᠲᠥᠯᠦᠭᠡ ᠶᠡᠬᠡ ᠠᠵᠢᠯ ᠢ ᠶᠠᠪᠤᠭᠤᠯᠵᠤ ᠪᠠᠶᠢᠨ᠎ᠠ ᠃ ᠡᠨᠡ ᠨᠢ ᠦᠨᠳᠦᠰᠦᠲᠡᠨ ᠦ ᠰᠤᠷᠭᠠᠯ ᠬᠦᠮᠦᠵᠢᠯ ᠢ ᠳᠡᠭᠡᠭᠰᠢᠯᠡᠭᠦᠯᠬᠦ ᠳᠦ ᠴᠢᠬᠤᠯᠠ ᠠᠴᠠ ᠤᠯᠤᠰ ᠲᠥᠷᠦ ᠶᠢᠨ ᠪᠣᠳᠯᠣᠭ᠎ᠠ ᠶᠢ ᠬᠡᠷᠡᠭᠵᠢᠭᠦᠯᠬᠦ ᠃ ᠮᠣᠩᠭᠣᠯ ᠦᠨᠳᠦᠰᠦᠲᠡᠨ ᠦ ᠦᠯᠡᠮᠵᠢ ᠰᠣᠶᠣᠯ ᠢ ᠬᠠᠮᠠᠭᠠᠯᠠᠨ ᠬᠥᠭᠵᠢᠭᠦᠯᠬᠦ ᠶᠢᠨ ᠲᠥᠯᠦᠭᠡ ᠶᠡᠬᠡ ᠠᠵᠢᠯ ᠢ ᠶᠠᠪᠤᠭᠤᠯᠵᠤ ᠪᠠᠶᠢᠨ᠎ᠠ ᠃ ᠡᠨᠡ ᠨᠢ ᠦᠨᠳᠦᠰᠦᠲᠡᠨ ᠦ ᠰᠤᠷᠭᠠᠯ ᠬᠦᠮᠦᠵᠢᠯ ᠢ ᠳᠡᠭᠡᠭᠰᠢᠯᠡᠭᠦᠯᠬᠦ ᠳᠦ ᠴᠢᠬᠤᠯᠠ ᠠᠴᠠ ᠤᠯᠤᠰ ᠲᠥᠷᠦ ᠶᠢᠨ ᠪᠣᠳᠯᠣᠭ᠎ᠠ ᠶᠢ ᠬᠡᠷᠡᠭᠵᠢᠭᠦᠯᠬᠦ ᠃ ᠮᠣᠩᠭᠣᠯ ᠦᠨᠳᠦᠰᠦᠲᠡᠨ ᠦ ᠦᠯᠡᠮᠵᠢ ᠰᠣᠶᠣᠯ ᠢ ᠬᠠᠮᠠᠭᠠᠯᠠᠨ ᠬᠥᠭᠵᠢᠭᠦᠯᠬᠦ ᠶᠢᠨ ᠲᠥᠯᠦᠭᠡ ᠶᠡᠬᠡ ᠠᠵᠢᠯ ᠢ ᠶᠠᠪᠤᠭᠤᠯᠵᠤ ᠪᠠᠶᠢᠨ᠎ᠠ ᠃ ᠡᠨᠡ ᠨᠢ ᠦᠨᠳᠦᠰᠦᠲᠡᠨ ᠦ ᠰᠤᠷᠭᠠᠯ ᠬᠦᠮᠦᠵᠢᠯ ᠢ ᠳᠡᠭᠡᠭᠰᠢᠯᠡᠭᠦᠯᠬᠦ ᠳᠦ ᠴᠢᠬᠤᠯᠠ ᠠᠴᠠ ᠤᠯᠤᠰ ᠲᠥᠷᠦ ᠶᠢᠨ ᠪᠣᠳᠯᠣᠭ᠎ᠠ ᠶᠢ ᠬᠡᠷᠡᠭᠵᠢᠭᠦᠯᠬᠦ ᠃ ᠮᠣᠩᠭᠣᠯ ᠦᠨᠳᠦᠰᠦᠲᠡᠨ ᠦ ᠦᠯᠡᠮᠵᠢ ᠰᠣᠶᠣᠯ ᠢ ᠬᠠᠮᠠᠭᠠᠯᠠᠨ ᠬᠥᠭᠵᠢᠭᠦᠯᠬᠦ ᠶᠢᠨ ᠲᠥᠯᠦᠭᠡ ᠶᠡᠬᠡ ᠠᠵᠢᠯ ᠢ ᠶᠠᠪᠤᠭᠤᠯᠵᠤ ᠪᠠᠶᠢᠨ᠎ᠠ ᠃ ᠡᠨᠡ ᠨᠢ ᠦᠨᠳᠦᠰᠦᠲᠡᠨ ᠦ ᠰᠤᠷᠭᠠᠯ ᠬᠦᠮᠦᠵᠢᠯ ᠢ ᠳᠡᠭᠡᠭᠰᠢᠯᠡᠭᠦᠯᠬᠦ ᠳᠦ ᠴᠢᠬᠤᠯᠠ ᠠᠴᠠ ᠤᠯᠤᠰ ᠲᠥᠷᠦ ᠶᠢᠨ ᠪᠣᠳᠯᠣᠭ᠎ᠠ ᠶᠢ ᠬᠡᠷᠡᠭᠵᠢᠭᠦᠯᠬᠦ ᠃ ᠮᠣᠩᠭᠣᠯ ᠦᠨᠳᠦᠰᠦᠲᠡᠨ ᠦ ᠦᠯᠡᠮᠵᠢ ᠰᠣᠶᠣᠯ ᠢ ᠬᠠᠮᠠᠭᠠᠯᠠᠨ ᠬᠥᠭᠵᠢᠭᠦᠯᠬᠦ ᠶᠢᠨ ᠲᠥᠯᠦᠭᠡ ᠶᠡᠬᠡ ᠠᠵᠢᠯ ᠢ ᠶᠠᠪᠤᠭᠤᠯᠵᠤ ᠪᠠᠶᠢᠨ᠎ᠠ ᠃ ᠡᠨᠡ ᠨᠢ ᠦᠨᠳᠦᠰᠦᠲᠡᠨ ᠦ ᠰᠤᠷᠭᠠᠯ ᠬᠦᠮᠦᠵᠢᠯ ᠢ ᠳᠡᠭᠡᠭᠰᠢᠯᠡᠭᠦᠯᠬᠦ ᠳᠦ ᠴᠢᠬᠤᠯᠠ ᠠᠴᠠ ᠤᠯᠤᠰ ᠲᠥᠷᠦ ᠶᠢᠨ ᠪᠣᠳᠯᠣᠭ᠎ᠠ ᠶᠢ ᠬᠡᠷᠡᠭᠵᠢᠭᠦᠯᠬᠦ ᠃ ᠮᠣᠩᠭᠣᠯ ᠦᠨᠳᠦᠰᠦᠲᠡᠨ ᠦ ᠦᠯᠡᠮᠵᠢ ᠰᠣᠶᠣᠯ ᠢ ᠬᠠᠮᠠᠭᠠᠯᠠᠨ ᠬᠥᠭᠵᠢᠭᠦᠯᠬᠦ ᠶᠢᠨ ᠲᠥᠯᠦᠭᠡ ᠶᠡᠬᠡ ᠠᠵᠢᠯ ᠢ ᠶᠠᠪᠤᠭᠤᠯᠵᠤ ᠪᠠᠶᠢᠨ᠎ᠠ ᠃ ᠡᠨᠡ ᠨᠢ ᠦᠨᠳᠦᠰᠦᠲᠡᠨ ᠦ ᠰᠤᠷᠭᠠᠯ ᠬᠦᠮᠦᠵᠢᠯ ᠢ ᠳᠡᠭᠡᠭᠰᠢᠯᠡᠭᠦᠯᠬᠦ ᠳᠦ ᠴᠢᠬᠤᠯᠠ ᠠᠴᠠ ᠤᠯᠤᠰ ᠲᠥᠷᠦ ᠶᠢᠨ ᠪᠣᠳᠯᠣᠭ᠎ᠠ ᠶᠢ ᠬᠡᠷᠡᠭᠵᠢᠭᠦᠯᠬᠦ ᠃ ᠮᠣᠩᠭᠣᠯ ᠦᠨᠳᠦᠰᠦᠲᠡᠨ ᠦ ᠦᠯᠡᠮᠵᠢ ᠰᠣᠶᠣᠯ ᠢ ᠬᠠᠮᠠᠭᠠᠯᠠᠨ ᠬᠥᠭᠵᠢᠭᠦᠯᠬᠦ ᠶᠢᠨ ᠲᠥᠯᠦᠭᠡ ᠶᠡᠬᠡ ᠠᠵᠢᠯ ᠢ ᠶᠠᠪᠤᠭᠤᠯᠵᠤ ᠪᠠᠶᠢᠨ᠎ᠠ ᠃ ᠡᠨᠡ ᠨᠢ ᠦᠨᠳᠦᠰᠦᠲᠡᠨ ᠦ ᠰᠤᠷᠭᠠᠯ ᠬᠦᠮᠦᠵᠢᠯ ᠢ ᠳᠡᠭᠡᠭᠰᠢᠯᠡᠭᠦᠯᠬᠦ ᠳᠦ ᠴᠢᠬᠤᠯᠠ ᠠᠴᠠ ᠤᠯᠤᠰ ᠲᠥᠷᠦ ᠶᠢᠨ ᠪᠣᠳᠯᠣᠭ᠎ᠠ ᠶᠢ ᠬᠡᠷᠡᠭᠵᠢᠭᠦᠯᠬᠦ ᠃ ᠮᠣᠩᠭᠣᠯ ᠦᠨᠳᠦᠰᠦᠲᠡᠨ ᠦ ᠦᠯᠡᠮᠵᠢ ᠰᠣᠶᠣᠯ ᠢ ᠬᠠᠮᠠᠭᠠᠯᠠᠨ ᠬᠥᠭᠵᠢᠭᠦᠯᠬᠦ ᠶᠢᠨ ᠲᠥᠯᠦᠭᠡ ᠶᠡᠬᠡ ᠠᠵᠢᠯ ᠢ ᠶᠠᠪᠤᠭᠤᠯᠵᠤ ᠪᠠᠶᠢᠨ᠎ᠠ ᠃ ᠡᠨᠡ ᠨᠢ ᠦᠨᠳᠦᠰᠦᠲᠡᠨ ᠦ ᠰᠤᠷᠭᠠᠯ ᠬᠦᠮᠦᠵᠢᠯ ᠢ ᠳᠡᠭᠡᠭᠰᠢᠯᠡᠭᠦᠯᠬᠦ ᠳᠦ ᠴᠢᠬᠤᠯᠠ ᠠᠴᠠ ᠤᠯᠤᠰ ᠲᠥᠷᠦ ᠶᠢᠨ ᠪᠣᠳᠯᠣᠭ᠎ᠠ ᠶᠢ ᠬᠡᠷᠡᠭᠵᠢᠭᠦᠯᠬᠦ ᠃ ᠮᠣᠩᠭᠣᠯ ᠦᠨᠳᠦᠰᠦᠲᠡᠨ ᠦ ᠦᠯᠡᠮᠵᠢ ᠰᠣᠶᠣᠯ ᠢ ᠬᠠᠮᠠᠭᠠᠯᠠᠨ ᠬᠥᠭᠵᠢᠭᠦᠯᠬᠦ ᠶᠢᠨ ᠲᠥᠯᠦᠭᠡ ᠶᠡᠬᠡ ᠠᠵᠢᠯ ᠢ ᠶᠠᠪᠤᠭᠤᠯᠵᠤ ᠪᠠᠶᠢᠨ᠎ᠠ ᠃ ᠡᠨᠡ ᠨᠢ ᠦᠨᠳᠦᠰᠦᠲᠡᠨ ᠦ ᠰᠤᠷᠭᠠᠯ ᠬᠦᠮᠦᠵᠢᠯ ᠢ ᠳᠡᠭᠡᠭᠰᠢᠯᠡᠭᠦᠯᠬᠦ ᠳᠦ ᠴᠢᠬᠤᠯᠠ ᠠᠴᠠ ᠤᠯᠤᠰ ᠲᠥᠷᠦ ᠶᠢᠨ ᠪᠣᠳᠯᠣᠭ᠎ᠠ ᠶᠢ ᠬᠡᠷᠡᠭᠵᠢᠭᠦᠯᠬᠦ ᠃ ᠮᠣᠩᠭᠣᠯ ᠦᠨᠳᠦᠰᠦᠲᠡᠨ ᠦ ᠦᠯᠡᠮᠵᠢ ᠰᠣᠶᠣᠯ ᠢ ᠬᠠᠮᠠᠭᠠᠯᠠᠨ ᠬᠥᠭᠵᠢᠭᠦᠯᠬᠦ ᠶᠢᠨ ᠲᠥᠯᠦᠭᠡ ᠶᠡᠬᠡ ᠠᠵᠢᠯ ᠢ ᠶᠠᠪᠤᠭᠤᠯᠵᠤ ᠪᠠᠶᠢᠨ᠎ᠠ ᠃ ᠡᠨᠡ ᠨᠢ ᠦᠨᠳᠦᠰᠦᠲᠡᠨ ᠦ ᠰᠤᠷᠭᠠᠯ ᠬᠦᠮᠦᠵᠢᠯ ᠢ ᠳᠡᠭᠡᠭᠰᠢᠯᠡᠭᠦᠯᠬᠦ ᠳᠦ ᠴᠢᠬᠤᠯᠠ ᠠᠴᠠ ᠤᠯᠤᠰ ᠲᠥᠷᠦ ᠶᠢᠨ ᠪᠣᠳᠯᠣᠭ᠎ᠠ ᠶᠢ ᠬᠡᠷᠡᠭᠵᠢᠭᠦᠯᠬᠦ ᠃ ᠮᠣᠩᠭᠣᠯ ᠦᠨᠳᠦᠰᠦᠲᠡᠨ ᠦ ᠦᠯᠡᠮᠵᠢ ᠰᠣᠶᠣᠯ ᠢ ᠬᠠᠮᠠᠭᠠᠯᠠᠨ ᠬᠥᠭᠵᠢᠭᠦᠯᠬᠦ ᠶᠢᠨ ᠲᠥᠯᠦᠭᠡ ᠶᠡᠬᠡ ᠠᠵᠢᠯ ᠢ ᠶᠠᠪᠤᠭᠤᠯᠵᠤ ᠪᠠᠶᠢᠨ᠎ᠠ ᠃ ᠡᠨᠡ ᠨᠢ ᠦᠨᠳᠦᠰᠦᠲᠡᠨ ᠦ ᠰᠤᠷᠭᠠᠯ ᠬᠦᠮᠦᠵᠢᠯ ᠢ ᠳᠡᠭᠡᠭᠰᠢᠯᠡᠭᠦᠯᠬᠦ ᠳᠦ ᠴᠢᠬᠤᠯᠠ ᠠᠴᠠ ᠤᠯᠤᠰ ᠲᠥᠷᠦ ᠶᠢᠨ ᠪᠣᠳᠯᠣᠭ᠎ᠠ ᠶᠢ ᠬᠡᠷᠡᠭᠵᠢᠭᠦᠯᠬᠦ ᠃ ᠮᠣᠩᠭᠣᠯ ᠦᠨᠳᠦᠰᠦᠲᠡᠨ ᠦ ᠦᠯᠡᠮᠵᠢ ᠰᠣᠶᠣᠯ ᠢ ᠬᠠᠮᠠᠭᠠᠯᠠᠨ ᠬᠥᠭᠵᠢᠭᠦᠯᠬᠦ ᠶᠢᠨ ᠲᠥᠯᠦᠭᠡ ᠶᠡᠬᠡ ᠠᠵᠢᠯ ᠢ ᠶᠠᠪᠤᠭᠤᠯᠵᠤ ᠪᠠᠶᠢᠨ᠎ᠠ ᠃ ᠡᠨᠡ ᠨᠢ ᠦᠨᠳᠦᠰᠦᠲᠡᠨ ᠦ ᠰᠤᠷᠭᠠᠯ ᠬᠦᠮᠦᠵᠢᠯ ᠢ ᠳᠡᠭᠡᠭᠰᠢᠯᠡᠭᠦᠯᠬᠦ ᠳᠦ ᠴᠢᠬᠤᠯᠠ ᠠᠴᠠ ᠤᠯᠤᠰ ᠲᠥᠷᠦ ᠶᠢᠨ ᠪᠣᠳᠯᠣᠭ᠎ᠠ ᠶᠢ ᠬᠡᠷᠡᠭᠵᠢᠭᠦᠯᠬᠦ ᠃ ᠮᠣᠩᠭᠣᠯ ᠦᠨᠳᠦᠰᠦᠲᠡᠨ ᠦ ᠦᠯᠡᠮᠵᠢ ᠰᠣᠶᠣᠯ ᠢ ᠬᠠᠮᠠᠭᠠᠯᠠᠨ ᠬᠥᠭᠵᠢᠭᠦᠯᠬᠦ ᠶᠢᠨ ᠲᠥᠯᠦᠭᠡ ᠶᠡᠬᠡ ᠠᠵᠢᠯ ᠢ ᠶᠠᠪᠤᠭᠤᠯᠵᠤ ᠪᠠᠶᠢᠨ᠎ᠠ ᠃ ᠡᠨᠡ ᠨᠢ ᠦᠨᠳᠦᠰᠦᠲᠡᠨ ᠦ ᠰᠤᠷᠭᠠᠯ ᠬᠦᠮᠦᠵᠢᠯ ᠢ ᠳᠡᠭᠡᠭᠰᠢᠯᠡᠭᠦᠯᠬᠦ ᠳᠦ ᠴᠢᠬᠤᠯᠠ ᠠᠴᠠ ᠤᠯᠤᠰ ᠲᠥᠷᠦ ᠶᠢᠨ ᠪᠣᠳᠯᠣᠭ᠎ᠠ ᠶᠢ ᠬᠡᠷᠡᠭᠵᠢᠭᠦᠯᠬᠦ ᠃ ᠮᠣᠩᠭᠣᠯ ᠦᠨᠳᠦᠰᠦᠲᠡᠨ ᠦ ᠦᠯᠡᠮᠵᠢ ᠰᠣᠶᠣᠯ ᠢ ᠬᠠᠮᠠᠭᠠᠯᠠᠨ ᠬᠥᠭᠵᠢᠭᠦᠯᠬᠦ ᠶᠢᠨ ᠲᠥᠯᠦᠭᠡ ᠶᠡᠬᠡ ᠠᠵᠢᠯ ᠢ ᠶᠠᠪᠤᠭᠤᠯᠵᠤ ᠪᠠᠶᠢᠨ᠎ᠠ ᠃ ᠡᠨᠡ ᠨᠢ ᠦᠨᠳᠦᠰᠦᠲᠡᠨ ᠦ ᠰᠤᠷᠭᠠᠯ ᠬᠦᠮᠦᠵᠢᠯ ᠢ ᠳᠡᠭᠡᠭᠰᠢᠯᠡᠭᠦᠯᠬᠦ ᠳᠦ ᠴᠢᠬᠤᠯᠠ ᠠᠴᠠ ᠤᠯᠤᠰ ᠲᠥᠷᠦ ᠶᠢᠨ ᠪᠣᠳᠯᠣᠭ᠎ᠠ ᠶᠢ ᠬᠡᠷᠡᠭᠵᠢᠭᠦᠯᠬᠦ ᠃ ᠮᠣᠩᠭᠣᠯ ᠦᠨᠳᠦᠰᠦᠲᠡᠨ ᠦ ᠦᠯᠡᠮᠵᠢ ᠰᠣᠶᠣᠯ ᠢ ᠬᠠᠮᠠᠭᠠᠯᠠᠨ ᠬᠥᠭᠵᠢᠭᠦᠯᠬᠦ ᠶᠢᠨ ᠲᠥᠯᠦᠭᠡ ᠶᠡᠬᠡ ᠠᠵᠢᠯ ᠢ ᠶᠠᠪᠤᠭᠤᠯᠵᠤ ᠪᠠᠶᠢᠨ᠎ᠠ ᠃ ᠡᠨᠡ ᠨᠢ ᠦᠨᠳᠦᠰᠦᠲᠡᠨ ᠦ ᠰᠤᠷᠭᠠᠯ ᠬᠦᠮᠦᠵᠢᠯ ᠢ ᠳᠡᠭᠡᠭᠰᠢᠯᠡᠭᠦᠯᠬᠦ ᠳᠦ ᠴᠢᠬᠤᠯᠠ ᠠᠴᠠ ᠤᠯᠤᠰ ᠲᠥᠷᠦ ᠶᠢᠨ ᠪᠣᠳᠯᠣᠭ᠎ᠠ ᠶᠢ ᠬᠡᠷᠡᠭᠵᠢᠭᠦᠯᠬᠦ ᠃ ᠮᠣᠩᠭᠣᠯ ᠦᠨᠳᠦᠰᠦᠲᠡᠨ ᠦ ᠦᠯᠡᠮᠵᠢ ᠰᠣᠶᠣᠯ ᠢ ᠬᠠᠮᠠᠭᠠᠯᠠᠨ ᠬᠥᠭᠵᠢᠭᠦᠯᠬᠦ ᠶᠢᠨ ᠲᠥᠯᠦᠭᠡ ᠶᠡᠬᠡ ᠠᠵᠢᠯ ᠢ ᠶᠠᠪᠤᠭᠤᠯᠵᠤ ᠪᠠᠶᠢᠨ᠎ᠠ ᠃ ᠡᠨᠡ ᠨᠢ ᠦᠨᠳᠦᠰᠦᠲᠡᠨ ᠦ ᠰᠤᠷᠭᠠᠯ ᠬᠦᠮᠦᠵᠢᠯ ᠢ ᠳᠡᠭᠡᠭᠰᠢᠯᠡᠭᠦᠯᠬᠦ ᠳᠦ ᠴᠢᠬᠤᠯᠠ ᠠᠴᠠ ᠤᠯᠤᠰ ᠲᠥᠷᠦ ᠶᠢᠨ ᠪᠣᠳᠯᠣᠭ᠎ᠠ ᠶᠢ ᠬᠡᠷᠡᠭᠵᠢᠭᠦᠯᠬᠦ ᠃ ᠮᠣᠩᠭᠣᠯ ᠦᠨᠳᠦᠰᠦᠲᠡᠨ ᠦ ᠦᠯᠡᠮᠵᠢ ᠰᠣᠶᠣᠯ ᠢ ᠬᠠᠮᠠᠭᠠᠯᠠᠨ ᠬᠥᠭᠵᠢᠭᠦᠯᠬᠦ ᠶᠢᠨ ᠲᠥᠯᠦᠭᠡ ᠶᠡᠬᠡ ᠠᠵᠢᠯ ᠢ ᠶᠠᠪᠤᠭᠤᠯᠵᠤ ᠪᠠᠶᠢᠨ᠎ᠠ ᠃ ᠡᠨᠡ ᠨᠢ ᠦᠨᠳᠦᠰᠦᠲᠡᠨ ᠦ ᠰᠤᠷᠭᠠᠯ ᠬᠦᠮᠦᠵᠢᠯ ᠢ ᠳᠡᠭᠡᠭᠰᠢᠯᠡᠭᠦᠯᠬᠦ ᠳᠦ ᠴᠢᠬᠤᠯᠠ ᠠᠴᠠ ᠤᠯᠤᠰ ᠲᠥᠷᠦ ᠶᠢᠨ ᠪᠣᠳᠯᠣᠭ᠎ᠠ ᠶᠢ ᠬᠡᠷᠡᠭᠵᠢᠭᠦᠯᠬᠦ ᠃ ᠮᠣᠩᠭᠣᠯ ᠦᠨᠳᠦᠰᠦᠲᠡᠨ ᠦ ᠦᠯᠡᠮᠵᠢ ᠰᠣᠶᠣᠯ ᠢ ᠬᠠᠮᠠᠭᠠᠯᠠᠨ ᠬᠥᠭᠵᠢᠭᠦᠯᠬᠦ ᠶᠢᠨ ᠲᠥᠯᠦᠭᠡ ᠶᠡᠬᠡ ᠠᠵᠢᠯ ᠢ ᠶᠠᠪᠤᠭᠤᠯᠵᠤ ᠪᠠᠶᠢᠨ᠎ᠠ ᠃ ᠡᠨᠡ ᠨᠢ ᠦᠨᠳᠦᠰᠦᠲᠡᠨ ᠦ ᠰᠤᠷᠭᠠᠯ ᠬᠦᠮᠦᠵᠢᠯ ᠢ ᠳᠡᠭᠡᠭᠰᠢᠯᠡᠭᠦᠯᠬᠦ ᠳᠦ ᠴᠢᠬᠤᠯᠠ ᠠᠴᠠ ᠤᠯᠤᠰ ᠲᠥᠷᠦ ᠶᠢᠨ ᠪᠣᠳᠯᠣᠭ᠎ᠠ ᠶᠢ ᠬᠡᠷᠡᠭᠵᠢᠭᠦᠯᠬᠦ ᠃ ᠮᠣᠩᠭᠣᠯ ᠦᠨᠳᠦᠰᠦᠲᠡᠨ ᠦ ᠦᠯᠡᠮᠵᠢ ᠰᠣᠶᠣᠯ ᠢ ᠬᠠᠮᠠᠭᠠᠯᠠᠨ ᠬᠥᠭᠵᠢᠭᠦᠯᠬᠦ ᠶᠢᠨ ᠲᠥᠯᠦᠭᠡ ᠶᠡᠬᠡ ᠠᠵᠢᠯ ᠢ ᠶᠠᠪᠤᠭᠤᠯᠵᠤ ᠪᠠᠶᠢᠨ᠎ᠠ ᠃ ᠡᠨᠡ ᠨᠢ ᠦᠨᠳᠦᠰᠦᠲᠡᠨ ᠦ ᠰᠤᠷᠭᠠᠯ ᠬᠦᠮᠦᠵᠢᠯ ᠢ ᠳᠡᠭᠡᠭᠰᠢᠯᠡᠭᠦᠯᠬᠦ ᠳᠦ ᠴᠢᠬᠤᠯᠠ ᠠᠴᠠ ᠤᠯᠤᠰ ᠲᠥᠷᠦ ᠶᠢᠨ ᠪᠣᠳᠯᠣᠭ᠎ᠠ ᠶᠢ ᠬᠡᠷᠡᠭᠵᠢᠭᠦᠯᠬᠦ ᠃ ᠮᠣᠩᠭᠣᠯ ᠦᠨᠳᠦᠰᠦᠲᠡᠨ ᠦ ᠦᠯᠡᠮᠵᠢ ᠰᠣᠶᠣᠯ ᠢ ᠬᠠᠮᠠᠭᠠᠯᠠᠨ ᠬᠥᠭᠵᠢᠭᠦᠯᠬᠦ ᠶᠢᠨ ᠲᠥᠯᠦᠭᠡ ᠶᠡᠬᠡ ᠠᠵᠢᠯ ᠢ ᠶᠠᠪᠤᠭᠤᠯᠵᠤ ᠪᠠᠶᠢᠨ᠎ᠠ ᠃ ᠡᠨᠡ ᠨᠢ ᠦᠨᠳᠦᠰᠦᠲᠡᠨ ᠦ ᠰᠤᠷᠭᠠᠯ ᠬᠦᠮᠦᠵᠢᠯ ᠢ ᠳᠡᠭᠡᠭᠰᠢᠯᠡᠭᠦᠯᠬᠦ ᠳᠦ ᠴᠢᠬᠤᠯᠠ ᠠᠴᠠ ᠤᠯᠤᠰ ᠲᠥᠷᠦ ᠶᠢᠨ ᠪᠣᠳᠯᠣᠭ᠎ᠠ ᠶᠢ ᠬᠡᠷᠡᠭᠵᠢᠭᠦᠯᠬᠦ ᠃ ᠮᠣᠩᠭᠣᠯ ᠦᠨᠳᠦᠰᠦᠲᠡᠨ ᠦ ᠦᠯᠡᠮᠵᠢ ᠰᠣᠶᠣᠯ ᠢ ᠬᠠᠮᠠᠭᠠᠯᠠᠨ ᠬᠥᠭᠵᠢᠭᠦᠯᠬᠦ ᠶᠢᠨ ᠲᠥᠯᠦᠭᠡ ᠶᠡᠬᠡ ᠠᠵᠢᠯ ᠢ ᠶᠠᠪᠤᠭᠤᠯᠵᠤ ᠪᠠᠶᠢᠨ᠎ᠠ ᠃ ᠡᠨᠡ ᠨᠢ ᠦᠨᠳᠦᠰᠦᠲᠡᠨ ᠦ ᠰᠤᠷᠭᠠᠯ ᠬᠦᠮᠦᠵᠢᠯ ᠢ ᠳᠡᠭᠡᠭᠰᠢᠯᠡᠭᠦᠯᠬᠦ ᠳᠦ ᠴᠢᠬᠤᠯᠠ ᠠᠴᠠ ᠤᠯᠤᠰ ᠲᠥᠷᠦ ᠶᠢᠨ ᠪᠣᠳᠯᠣᠭ᠎ᠠ ᠶᠢ ᠬᠡᠷᠡᠭᠵᠢᠭᠦᠯᠬᠦ ᠃ ᠮᠣᠩᠭᠣᠯ ᠦᠨᠳᠦᠰᠦᠲᠡᠨ ᠦ ᠦᠯᠡᠮᠵᠢ ᠰᠣᠶᠣᠯ ᠢ ᠬᠠᠮᠠᠭᠠᠯᠠᠨ ᠬᠥᠭᠵᠢᠭᠦᠯᠬᠦ ᠶᠢᠨ ᠲᠥᠯᠦᠭᠡ ᠶᠡᠬᠡ ᠠᠵᠢᠯ ᠢ ᠶᠠᠪᠤᠭᠤᠯᠵᠤ ᠪᠠᠶᠢᠨ᠎ᠠ ᠃ ᠡᠨᠡ ᠨᠢ ᠦᠨᠳᠦᠰᠦᠲᠡᠨ ᠦ ᠰᠤᠷᠭᠠᠯ ᠬᠦᠮᠦᠵᠢᠯ ᠢ ᠳᠡᠭᠡᠭᠰᠢᠯᠡᠭᠦᠯᠬᠦ ᠳᠦ ᠴᠢᠬᠤᠯᠠ ᠠᠴᠠ ᠤᠯᠤᠰ ᠲᠥᠷᠦ ᠶᠢᠨ ᠪᠣᠳᠯᠣᠭ᠎ᠠ ᠶᠢ ᠬᠡᠷᠡᠭᠵᠢᠭᠦᠯᠬᠦ ᠃ ᠮᠣᠩᠭᠣᠯ ᠦᠨᠳᠦᠰᠦᠲᠡᠨ ᠦ ᠦᠯᠡᠮᠵᠢ ᠰᠣᠶᠣᠯ ᠢ ᠬᠠᠮᠠᠭᠠᠯᠠᠨ ᠬᠥᠭᠵᠢᠭᠦᠯᠬᠦ ᠶᠢᠨ ᠲᠥᠯᠦᠭᠡ ᠶᠡᠬᠡ ᠠᠵᠢᠯ ᠢ ᠶᠠᠪᠤᠭᠤᠯᠵᠤ ᠪᠠᠶᠢᠨ᠎ᠠ ᠃ ᠡᠨᠡ ᠨᠢ ᠦᠨᠳᠦᠰᠦᠲᠡᠨ ᠦ ᠰᠤᠷᠭᠠᠯ ᠬᠦᠮᠦᠵᠢᠯ ᠢ ᠳᠡᠭᠡᠭᠰᠢᠯᠡᠭᠦᠯᠬᠦ ᠳᠦ ᠴᠢᠬᠤᠯᠠ ᠠᠴᠠ ᠤᠯᠤᠰ ᠲᠥᠷᠦ ᠶᠢᠨ ᠪᠣᠳᠯᠣᠭ᠎ᠠ ᠶᠢ ᠬᠡᠷᠡᠭᠵᠢᠭᠦᠯᠬᠦ ᠃ ᠮᠣᠩᠭᠣᠯ ᠦᠨᠳᠦᠰᠦᠲᠡᠨ ᠦ ᠦᠯᠡᠮᠵᠢ ᠰᠣᠶᠣᠯ ᠢ ᠬᠠᠮᠠᠭᠠᠯᠠᠨ ᠬᠥᠭᠵᠢᠭᠦᠯᠬᠦ ᠶᠢᠨ ᠲᠥᠯᠦᠭᠡ ᠶᠡᠬᠡ ᠠᠵᠢᠯ ᠢ ᠶᠠᠪᠤᠭᠤᠯᠵᠤ ᠪᠠᠶᠢᠨ᠎ᠠ ᠃ ᠡᠨᠡ ᠨᠢ ᠦᠨᠳᠦᠰᠦᠲᠡᠨ ᠦ ᠰᠤᠷᠭᠠᠯ ᠬᠦᠮᠦᠵᠢᠯ ᠢ ᠳᠡᠭᠡᠭᠰᠢᠯᠡᠭᠦᠯᠬᠦ ᠳᠦ ᠴᠢᠬᠤᠯᠠ ᠠᠴᠠ ᠤᠯᠤᠰ ᠲᠥᠷᠦ ᠶᠢᠨ ᠪᠣᠳᠯᠣᠭ᠎ᠠ ᠶᠢ ᠬᠡᠷᠡᠭᠵᠢᠭᠦᠯᠬᠦ ᠃ ᠮᠣᠩᠭᠣᠯ ᠦᠨᠳᠦᠰᠦᠲᠡᠨ ᠦ ᠦᠯᠡᠮᠵᠢ ᠰᠣᠶᠣᠯ ᠢ ᠬᠠᠮᠠᠭᠠᠯᠠᠨ ᠬᠥᠭᠵᠢᠭᠦᠯᠬᠦ ᠶᠢᠨ ᠲᠥᠯᠦᠭᠡ ᠶᠡᠬᠡ ᠠᠵᠢᠯ ᠢ ᠶᠠᠪᠤᠭᠤᠯᠵᠤ ᠪᠠᠶᠢᠨ᠎ᠠ ᠃ ᠡᠨᠡ ᠨᠢ ᠦᠨᠳᠦᠰᠦᠲᠡᠨ ᠦ ᠰᠤᠷᠭᠠᠯ ᠬᠦᠮᠦᠵᠢᠯ ᠢ ᠳᠡᠭᠡᠭᠰᠢᠯᠡᠭᠦᠯᠬᠦ ᠳᠦ ᠴᠢᠬᠤᠯᠠ ᠠᠴᠠ ᠤᠯᠤᠰ ᠲᠥᠷᠦ ᠶᠢᠨ ᠪᠣᠳᠯᠣᠭ᠎ᠠ ᠶᠢ ᠬᠡᠷᠡᠭᠵᠢᠭᠦᠯᠬᠦ ᠃ ᠮᠣᠩᠭᠣᠯ ᠦᠨᠳᠦᠰᠦᠲᠡᠨ ᠦ ᠦᠯᠡᠮᠵᠢ ᠰᠣᠶᠣᠯ ᠢ ᠬᠠᠮᠠᠭᠠᠯᠠᠨ ᠬᠥᠭᠵᠢᠭᠦᠯᠬᠦ ᠶᠢᠨ ᠲᠥᠯᠦᠭᠡ ᠶᠡᠬᠡ ᠠᠵᠢᠯ ᠢ ᠶᠠᠪᠤᠭᠤᠯᠵᠤ ᠪᠠᠶᠢᠨ᠎ᠠ ᠃ ᠡᠨᠡ ᠨᠢ ᠦᠨᠳᠦᠰᠦᠲᠡᠨ ᠦ ᠰᠤᠷᠭᠠᠯ ᠬᠦᠮᠦᠵᠢᠯ ᠢ ᠳᠡᠭᠡᠭᠰᠢᠯᠡᠭᠦᠯᠬᠦ ᠳᠦ ᠴᠢᠬᠤᠯᠠ ᠠᠴᠠ ᠤᠯᠤᠰ ᠲᠥᠷᠦ ᠶᠢᠨ ᠪᠣᠳᠯᠣᠭ᠎ᠠ ᠶᠢ ᠬᠡᠷᠡᠭᠵᠢᠭᠦᠯᠬᠦ ᠃ ᠮᠣᠩᠭᠣᠯ ᠦᠨᠳᠦᠰᠦᠲᠡᠨ ᠦ ᠦᠯᠡᠮᠵᠢ ᠰᠣᠶᠣᠯ ᠢ ᠬᠠᠮᠠᠭᠠᠯᠠᠨ ᠬᠥᠭᠵᠢᠭᠦᠯᠬᠦ ᠶᠢᠨ ᠲᠥᠯᠦᠭᠡ ᠶᠡᠬᠡ ᠠᠵᠢᠯ ᠢ ᠶᠠᠪᠤᠭᠤᠯᠵᠤ ᠪᠠᠶᠢᠨ᠎ᠠ ᠃ ᠡᠨᠡ ᠨᠢ ᠦᠨᠳᠦᠰᠦᠲᠡᠨ ᠦ ᠰᠤᠷᠭᠠᠯ ᠬᠦᠮᠦᠵᠢᠯ ᠢ ᠳᠡᠭᠡᠭᠰᠢᠯᠡᠭᠦᠯᠬᠦ ᠳᠦ ᠴᠢᠬᠤᠯᠠ ᠠᠴᠠ ᠤᠯᠤᠰ ᠲᠥᠷᠦ ᠶᠢᠨ ᠪᠣᠳᠯᠣᠭ᠎ᠠ ᠶᠢ ᠬᠡᠷᠡᠭᠵᠢᠭᠦᠯᠬᠦ ᠃ ᠮᠣᠩᠭᠣᠯ ᠦᠨᠳᠦᠰᠦᠲᠡᠨ ᠦ ᠦᠯᠡᠮᠵᠢ ᠰᠣᠶᠣᠯ ᠢ ᠬᠠᠮᠠᠭᠠᠯᠠᠨ ᠬᠥᠭᠵᠢᠭᠦᠯᠬᠦ ᠶᠢᠨ ᠲᠥᠯᠦᠭᠡ ᠶᠡᠬᠡ ᠠᠵᠢᠯ ᠢ ᠶᠠᠪᠤᠭᠤᠯᠵᠤ ᠪᠠᠶᠢᠨ᠎ᠠ ᠃ ᠡᠨᠡ ᠨᠢ ᠦᠨᠳᠦᠰᠦᠲᠡᠨ ᠦ ᠰᠤᠷᠭᠠᠯ ᠬᠦᠮᠦᠵᠢᠯ ᠢ ᠳᠡᠭᠡᠭᠰᠢᠯᠡᠭᠦᠯᠬᠦ ᠳᠦ ᠴᠢᠬᠤᠯᠠ ᠠᠴᠠ ᠤᠯᠤᠰ ᠲᠥᠷᠦ ᠶᠢᠨ ᠪᠣᠳᠯᠣᠭ᠎ᠠ ᠶᠢ ᠬᠡᠷᠡᠭᠵᠢᠭᠦᠯᠬᠦ ᠃ ᠮᠣᠩᠭᠣᠯ ᠦᠨᠳᠦᠰᠦᠲᠡᠨ ᠦ ᠦᠯᠡᠮᠵᠢ ᠰᠣᠶᠣᠯ ᠢ ᠬᠠᠮᠠᠭᠠᠯᠠᠨ ᠬᠥᠭᠵᠢᠭᠦᠯᠬᠦ ᠶᠢᠨ ᠲᠥᠯᠦᠭᠡ ᠶᠡᠬᠡ ᠠᠵᠢᠯ ᠢ ᠶᠠᠪᠤᠭᠤᠯᠵᠤ ᠪᠠᠶᠢᠨ᠎ᠠ ᠃ ᠡᠨᠡ ᠨᠢ ᠦᠨᠳᠦᠰᠦᠲᠡᠨ ᠦ ᠰᠤᠷᠭᠠᠯ ᠬᠦᠮᠦᠵᠢᠯ ᠢ ᠳᠡᠭᠡᠭᠰᠢᠯᠡᠭᠦᠯᠬᠦ ᠳᠦ ᠴᠢᠬᠤᠯᠠ ᠠᠴᠠ ᠤᠯᠤᠰ ᠲᠥᠷᠦ ᠶᠢᠨ ᠪᠣᠳᠯᠣᠭ᠎ᠠ ᠶᠢ ᠬᠡᠷᠡᠭᠵᠢᠭᠦᠯᠬᠦ ᠃ ᠮᠣᠩᠭᠣᠯ ᠦᠨᠳᠦᠰᠦᠲᠡᠨ ᠦ ᠦᠯᠡᠮᠵᠢ ᠰᠣᠶᠣᠯ ᠢ ᠬᠠᠮᠠᠭᠠᠯᠠᠨ ᠬᠥᠭᠵᠢᠭᠦᠯᠬᠦ ᠶᠢᠨ ᠲᠥᠯᠦᠭᠡ ᠶᠡᠬᠡ ᠠᠵᠢᠯ ᠢ ᠶᠠᠪᠤᠭᠤᠯᠵᠤ ᠪᠠᠶᠢᠨ᠎ᠠ ᠃ ᠡᠨᠡ ᠨᠢ ᠦᠨᠳᠦᠰᠦᠲᠡᠨ ᠦ ᠰᠤᠷᠭᠠᠯ ᠬᠦᠮᠦᠵᠢᠯ ᠢ ᠳᠡᠭᠡᠭᠰᠢᠯᠡᠭᠦᠯᠬᠦ ᠳᠦ ᠴᠢᠬᠤᠯᠠ ᠠᠴᠠ ᠤᠯᠤᠰ ᠲᠥᠷᠦ ᠶᠢᠨ ᠪᠣᠳᠯᠣᠭ᠎ᠠ ᠶᠢ ᠬᠡᠷᠡᠭᠵᠢᠭᠦᠯᠬᠦ ᠃ ᠮᠣᠩᠭᠣᠯ ᠦᠨᠳᠦᠰᠦᠲᠡᠨ ᠦ ᠦᠯᠡᠮᠵᠢ ᠰᠣᠶᠣᠯ ᠢ ᠬᠠᠮᠠᠭᠠᠯᠠᠨ ᠬᠥᠭᠵᠢᠭᠦᠯᠬᠦ ᠶᠢᠨ ᠲᠥᠯᠦᠭᠡ ᠶᠡᠬᠡ ᠠᠵᠢᠯ ᠢ ᠶᠠᠪᠤᠭᠤᠯᠵᠤ ᠪᠠᠶᠢᠨ᠎ᠠ ᠃ ᠡᠨᠡ ᠨᠢ ᠦᠨᠳᠦᠰᠦᠲᠡᠨ ᠦ ᠰᠤᠷᠭᠠᠯ ᠬᠦᠮᠦᠵᠢᠯ ᠢ ᠳᠡᠭᠡᠭᠰᠢᠯᠡᠭᠦᠯᠬᠦ ᠳᠦ ᠴᠢᠬᠤᠯᠠ ᠠᠴᠠ ᠤᠯᠤᠰ ᠲᠥᠷᠦ ᠶᠢᠨ ᠪᠣᠳᠯᠣᠭ᠎ᠠ ᠶᠢ ᠬᠡᠷᠡᠭᠵᠢᠭᠦᠯᠬᠦ ᠃ ᠮᠣᠩᠭᠣᠯ ᠦᠨᠳᠦᠰᠦᠲᠡᠨ ᠦ ᠦᠯᠡᠮᠵᠢ ᠰᠣᠶᠣᠯ ᠢ ᠬᠠᠮᠠᠭᠠᠯᠠᠨ ᠬᠥᠭᠵᠢᠭᠦᠯᠬᠦ ᠶᠢᠨ ᠲᠥᠯᠦᠭᠡ ᠶᠡᠬᠡ ᠠᠵᠢᠯ ᠢ ᠶᠠᠪᠤᠭᠤᠯᠵᠤ ᠪᠠᠶᠢᠨ᠎ᠠ ᠃ ᠡᠨᠡ ᠨᠢ ᠦᠨᠳᠦᠰᠦᠲᠡᠨ ᠦ ᠰᠤᠷᠭᠠᠯ ᠬᠦᠮᠦᠵᠢᠯ ᠢ ᠳᠡᠭᠡᠭᠰᠢᠯᠡᠭᠦᠯᠬᠦ ᠳᠦ ᠴᠢᠬᠤᠯᠠ ᠠᠴᠠ ᠤᠯᠤᠰ ᠲᠥᠷᠦ ᠶᠢᠨ ᠪᠣᠳᠯᠣᠭ᠎ᠠ ᠶᠢ ᠬᠡᠷᠡᠭᠵᠢᠭᠦᠯᠬᠦ ᠃ ᠮᠣᠩᠭᠣᠯ ᠦᠨᠳᠦᠰᠦᠲᠡᠨ ᠦ ᠦᠯᠡᠮᠵᠢ ᠰᠣᠶᠣᠯ ᠢ ᠬᠠᠮᠠᠭᠠᠯᠠᠨ ᠬᠥᠭᠵᠢᠭᠦᠯᠬᠦ ᠶᠢᠨ ᠲᠥᠯᠦᠭᠡ ᠶᠡᠬᠡ ᠠᠵᠢᠯ ᠢ ᠶᠠᠪᠤᠭᠤᠯᠵᠤ ᠪᠠᠶᠢᠨ᠎ᠠ ᠃ ᠡᠨᠡ ᠨᠢ ᠦᠨᠳᠦᠰᠦᠲᠡᠨ ᠦ ᠰᠤᠷᠭᠠᠯ ᠬᠦᠮᠦᠵᠢᠯ ᠢ ᠳᠡᠭᠡᠭᠰᠢᠯᠡᠭᠦᠯᠬᠦ ᠳᠦ ᠴᠢᠬᠤᠯᠠ ᠠᠴᠠ ᠤᠯᠤᠰ ᠲᠥᠷᠦ ᠶᠢᠨ ᠪᠣᠳᠯᠣᠭ᠎ᠠ ᠶᠢ ᠬᠡᠷᠡᠭᠵᠢᠭᠦᠯᠬᠦ ᠃ ᠮᠣᠩᠭᠣᠯ ᠦᠨᠳᠦᠰᠦᠲᠡᠨ ᠦ ᠦᠯᠡᠮᠵᠢ ᠰᠣᠶᠣᠯ ᠢ ᠬᠠᠮᠠᠭᠠᠯᠠᠨ ᠬᠥᠭᠵᠢᠭᠦᠯᠬᠦ ᠶᠢᠨ ᠲᠥᠯᠦᠭᠡ ᠶᠡᠬᠡ ᠠᠵᠢᠯ ᠢ ᠶᠠᠪᠤᠭᠤᠯᠵᠤ ᠪᠠᠶᠢᠨ᠎ᠠ ᠃ ᠡᠨᠡ ᠨᠢ ᠦᠨᠳᠦᠰᠦᠲᠡᠨ ᠦ ᠰᠤᠷᠭᠠᠯ ᠬᠦᠮᠦᠵᠢᠯ ᠢ ᠳᠡᠭᠡᠭᠰᠢᠯᠡᠭᠦᠯᠬᠦ ᠳᠦ ᠴᠢᠬᠤᠯᠠ ᠠᠴᠠ ᠤᠯᠤᠰ ᠲᠥᠷᠦ ᠶᠢᠨ ᠪᠣᠳᠯᠣᠭ᠎ᠠ ᠶᠢ ᠬᠡᠷᠡᠭᠵᠢᠭᠦᠯᠬᠦ ᠃ ᠮᠣᠩᠭᠣᠯ ᠦᠨᠳᠦᠰᠦᠲᠡᠨ ᠦ ᠦᠯᠡᠮᠵᠢ ᠰᠣᠶᠣᠯ ᠢ ᠬᠠᠮᠠᠭᠠᠯᠠᠨ ᠬᠥᠭᠵᠢᠭᠦᠯᠬᠦ ᠶᠢᠨ ᠲᠥᠯᠦᠭᠡ ᠶᠡᠬᠡ ᠠᠵᠢᠯ ᠢ ᠶᠠᠪᠤᠭᠤᠯᠵᠤ ᠪᠠᠶᠢᠨ᠎ᠠ ᠃ ᠡᠨᠡ ᠨᠢ ᠦᠨᠳᠦᠰᠦᠲᠡᠨ ᠦ ᠰᠤᠷᠭᠠᠯ ᠬᠦᠮᠦᠵᠢᠯ ᠢ ᠳᠡᠭᠡᠭᠰᠢᠯᠡᠭᠦᠯᠬᠦ ᠳᠦ ᠴᠢᠬᠤᠯᠠ ᠠᠴᠠ ᠤᠯᠤᠰ ᠲᠥᠷᠦ ᠶᠢᠨ ᠪᠣᠳᠯᠣᠭ᠎ᠠ ᠶᠢ ᠬᠡᠷᠡᠭᠵᠢᠭᠦᠯᠬᠦ ᠃ ᠮᠣᠩᠭᠣᠯ ᠦᠨᠳᠦᠰᠦᠲᠡᠨ ᠦ ᠦᠯᠡᠮᠵᠢ ᠰᠣᠶᠣᠯ ᠢ ᠬᠠᠮᠠᠭᠠᠯᠠᠨ ᠬᠥᠭᠵᠢᠭᠦᠯᠬᠦ ᠶᠢᠨ ᠲᠥᠯᠦᠭᠡ ᠶᠡᠬᠡ ᠠᠵᠢᠯ ᠢ ᠶᠠᠪᠤᠭᠤᠯᠵᠤ ᠪᠠᠶᠢᠨ᠎ᠠ ᠃ ᠡᠨᠡ ᠨᠢ ᠦᠨᠳᠦᠰᠦᠲᠡᠨ ᠦ ᠰᠤᠷᠭᠠᠯ ᠬᠦᠮᠦᠵᠢᠯ ᠢ ᠳᠡᠭᠡᠭᠰᠢᠯᠡᠭᠦᠯᠬᠦ ᠳᠦ ᠴᠢᠬᠤᠯᠠ ᠠᠴᠠ ᠤᠯᠤᠰ ᠲᠥᠷᠦ ᠶᠢᠨ ᠪᠣᠳᠯᠣᠭ᠎ᠠ ᠶᠢ ᠬᠡᠷᠡᠭᠵᠢᠭᠦᠯᠬᠦ ᠃ ᠮᠣᠩᠭᠣᠯ ᠦᠨᠳᠦᠰᠦᠲᠡᠨ ᠦ ᠦᠯᠡᠮᠵᠢ ᠰᠣᠶᠣᠯ ᠢ ᠬᠠᠮᠠᠭᠠᠯᠠᠨ ᠬᠥᠭᠵᠢᠭᠦᠯᠬᠦ ᠶᠢᠨ ᠲᠥᠯᠦᠭᠡ ᠶᠡᠬᠡ ᠠᠵᠢᠯ ᠢ ᠶᠠᠪᠤᠭᠤᠯᠵᠤ ᠪᠠᠶᠢᠨ᠎ᠠ ᠃ ᠡᠨᠡ ᠨᠢ ᠦᠨᠳᠦᠰᠦᠲᠡᠨ ᠦ ᠰᠤᠷᠭᠠᠯ ᠬᠦᠮᠦᠵᠢᠯ ᠢ ᠳᠡᠭᠡᠭᠰᠢᠯᠡᠭᠦᠯᠬᠦ ᠳᠦ ᠴᠢᠬᠤᠯᠠ ᠠᠴᠠ ᠤᠯᠤᠰ ᠲᠥᠷᠦ ᠶᠢᠨ ᠪᠣᠳᠯᠣᠭ᠎ᠠ ᠶᠢ ᠬᠡᠷᠡᠭᠵᠢᠭᠦᠯᠬᠦ ᠃ ᠮᠣᠩᠭᠣᠯ ᠦᠨᠳᠦᠰᠦᠲᠡᠨ ᠦ ᠦᠯᠡᠮᠵᠢ ᠰᠣᠶᠣᠯ ᠢ ᠬᠠᠮᠠᠭᠠᠯᠠᠨ ᠬᠥᠭᠵᠢᠭᠦᠯᠬᠦ ᠶᠢᠨ ᠲᠥᠯᠦᠭᠡ ᠶᠡᠬᠡ ᠠᠵᠢᠯ ᠢ ᠶᠠᠪᠤᠭᠤᠯᠵᠤ ᠪᠠᠶᠢᠨ᠎ᠠ ᠃ ᠡᠨᠡ ᠨᠢ ᠦᠨᠳᠦᠰᠦᠲᠡᠨ ᠦ ᠰᠤᠷᠭᠠᠯ ᠬᠦᠮᠦᠵᠢᠯ ᠢ ᠳᠡᠭᠡᠭᠰᠢᠯᠡᠭᠦᠯᠬᠦ ᠳᠦ ᠴᠢᠬᠤᠯᠠ ᠠᠴᠠ ᠤᠯᠤᠰ ᠲᠥᠷᠦ ᠶᠢᠨ ᠪᠣᠳᠯᠣᠭ᠎ᠠ ᠶᠢ ᠬᠡᠷᠡᠭᠵᠢᠭᠦᠯᠬᠦ ᠃ ᠮᠣᠩᠭᠣᠯ ᠦᠨᠳᠦᠰᠦᠲᠡᠨ ᠦ ᠦᠯᠡᠮᠵᠢ ᠰᠣᠶᠣᠯ ᠢ ᠬᠠᠮᠠᠭᠠᠯᠠᠨ ᠬᠥᠭᠵᠢᠭᠦᠯᠬᠦ ᠶᠢᠨ ᠲᠥᠯᠦᠭᠡ ᠶᠡᠬᠡ ᠠᠵᠢᠯ ᠢ ᠶᠠᠪᠤᠭᠤᠯᠵᠤ ᠪᠠᠶᠢᠨ᠎ᠠ ᠃ ᠡᠨᠡ ᠨᠢ ᠦᠨᠳᠦᠰᠦᠲᠡᠨ ᠦ ᠰᠤᠷᠭᠠᠯ ᠬᠦᠮᠦᠵᠢᠯ ᠢ ᠳᠡᠭᠡᠭᠰᠢᠯᠡᠭᠦᠯᠬᠦ ᠳᠦ ᠴᠢᠬᠤᠯᠠ ᠠᠴᠠ ᠤᠯᠤᠰ ᠲᠥᠷᠦ ᠶᠢᠨ ᠪᠣᠳᠯᠣᠭ᠎ᠠ ᠶᠢ ᠬᠡᠷᠡᠭᠵᠢᠭᠦᠯᠬᠦ ᠃ ᠮᠣᠩᠭᠣᠯ ᠦᠨᠳᠦᠰᠦᠲᠡᠨ ᠦ ᠦᠯᠡᠮᠵᠢ ᠰᠣᠶᠣᠯ ᠢ ᠬᠠᠮᠠᠭᠠᠯᠠᠨ ᠬᠥᠭᠵᠢᠭᠦᠯᠬᠦ ᠶᠢᠨ ᠲᠥᠯᠦᠭᠡ ᠶᠡᠬᠡ ᠠᠵᠢᠯ ᠢ ᠶᠠᠪᠤᠭᠤᠯᠵᠤ ᠪᠠᠶᠢᠨ᠎ᠠ ᠃ ᠡᠨᠡ ᠨᠢ ᠦᠨᠳᠦᠰᠦᠲᠡᠨ ᠦ ᠰᠤᠷᠭᠠᠯ ᠬᠦᠮᠦᠵᠢᠯ ᠢ ᠳᠡᠭᠡᠭᠰᠢᠯᠡᠭᠦᠯᠬᠦ ᠳᠦ ᠴᠢᠬᠤᠯᠠ ᠠᠴᠠ ᠤᠯᠤᠰ ᠲᠥᠷᠦ ᠶᠢᠨ ᠪᠣᠳᠯᠣᠭ᠎ᠠ ᠶᠢ ᠬᠡᠷᠡᠭᠵᠢᠭᠦᠯᠬᠦ ᠃ ᠮᠣᠩᠭᠣᠯ ᠦᠨᠳᠦᠰᠦᠲᠡᠨ ᠦ ᠦᠯᠡᠮᠵᠢ ᠰᠣᠶᠣᠯ ᠢ ᠬᠠᠮᠠᠭᠠᠯᠠᠨ ᠬᠥᠭᠵᠢᠭᠦᠯᠬᠦ ᠶᠢᠨ ᠲᠥᠯᠦᠭᠡ ᠶᠡᠬᠡ ᠠᠵᠢᠯ ᠢ ᠶᠠᠪᠤᠭᠤᠯᠵᠤ ᠪᠠᠶᠢᠨ᠎ᠠ ᠃ ᠡᠨᠡ ᠨᠢ ᠦᠨᠳᠦᠰᠦᠲᠡᠨ ᠦ ᠰᠤᠷᠭᠠᠯ ᠬᠦᠮᠦᠵᠢᠯ ᠢ ᠳᠡᠭᠡᠭᠰᠢᠯᠡᠭᠦᠯᠬᠦ ᠳᠦ ᠴᠢᠬᠤᠯᠠ ᠠᠴᠠ ᠤᠯᠤᠰ ᠲᠥᠷᠦ ᠶᠢᠨ ᠪᠣᠳᠯᠣᠭ᠎ᠠ ᠶᠢ ᠬᠡᠷᠡᠭᠵᠢᠭᠦᠯᠬᠦ ᠃ ᠮᠣᠩᠭᠣᠯ ᠦᠨᠳᠦᠰᠦᠲᠡᠨ ᠦ ᠦᠯᠡᠮᠵᠢ ᠰᠣᠶᠣᠯ ᠢ ᠬᠠᠮᠠᠭᠠᠯᠠᠨ ᠬᠥᠭᠵᠢᠭᠦᠯᠬᠦ ᠶᠢᠨ ᠲᠥᠯᠦᠭᠡ ᠶᠡᠬᠡ ᠠᠵᠢᠯ ᠢ ᠶᠠᠪᠤᠭᠤᠯᠵᠤ ᠪᠠᠶᠢᠨ᠎ᠠ ᠃ ᠡᠨᠡ ᠨᠢ ᠦᠨᠳᠦᠰᠦᠲᠡᠨ ᠦ ᠰᠤᠷᠭᠠᠯ ᠬᠦᠮᠦᠵᠢᠯ ᠢ ᠳᠡᠭᠡᠭᠰᠢᠯᠡᠭᠦᠯᠬᠦ ᠳᠦ ᠴᠢᠬᠤᠯᠠ ᠠᠴᠠ ᠤᠯᠤᠰ ᠲᠥᠷᠦ ᠶᠢᠨ ᠪᠣᠳᠯᠣᠭ᠎ᠠ ᠶᠢ ᠬᠡᠷᠡᠭᠵᠢᠭᠦᠯᠬᠦ ᠃ ᠮᠣᠩᠭᠣᠯ ᠦᠨᠳᠦᠰᠦᠲᠡᠨ ᠦ ᠦᠯᠡᠮᠵᠢ ᠰᠣᠶᠣᠯ ᠢ ᠬᠠᠮᠠᠭᠠᠯᠠᠨ ᠬᠥᠭᠵᠢᠭᠦᠯᠬᠦ ᠶᠢᠨ ᠲᠥᠯᠦᠭᠡ ᠶᠡᠬᠡ ᠠᠵᠢᠯ ᠢ ᠶᠠᠪᠤᠭᠤᠯᠵᠤ ᠪᠠᠶᠢᠨ᠎ᠠ ᠃ ᠡᠨᠡ ᠨᠢ ᠦᠨᠳᠦᠰᠦᠲᠡᠨ ᠦ ᠰᠤᠷᠭᠠᠯ ᠬᠦᠮᠦᠵᠢᠯ ᠢ ᠳᠡᠭᠡᠭᠰᠢᠯᠡᠭᠦᠯᠬᠦ ᠳᠦ ᠴᠢᠬᠤᠯᠠ ᠠᠴᠠ ᠤᠯᠤᠰ ᠲᠥᠷᠦ ᠶᠢᠨ ᠪᠣᠳᠯᠣᠭ᠎ᠠ ᠶᠢ ᠬᠡᠷᠡᠭᠵᠢᠭᠦᠯᠬᠦ ᠃ ᠮᠣᠩᠭᠣᠯ ᠦᠨᠳᠦᠰᠦᠲᠡᠨ ᠦ ᠦᠯᠡᠮᠵᠢ ᠰᠣᠶᠣᠯ ᠢ ᠬᠠᠮᠠᠭᠠᠯᠠᠨ ᠬᠥᠭᠵᠢᠭᠦᠯᠬᠦ ᠶᠢᠨ ᠲᠥᠯᠦᠭᠡ ᠶᠡᠬᠡ ᠠᠵᠢᠯ ᠢ ᠶᠠᠪᠤᠭᠤᠯᠵᠤ ᠪᠠᠶᠢᠨ᠎ᠠ ᠃ ᠡᠨᠡ ᠨᠢ ᠦᠨᠳᠦᠰᠦᠲᠡᠨ ᠦ ᠰᠤᠷᠭᠠᠯ ᠬᠦᠮᠦᠵᠢᠯ ᠢ ᠳᠡᠭᠡᠭᠰᠢᠯᠡᠭᠦᠯᠬᠦ ᠳᠦ ᠴᠢᠬᠤᠯᠠ ᠠᠴᠠ ᠤᠯᠤᠰ ᠲᠥᠷᠦ ᠶᠢᠨ ᠪᠣᠳᠯᠣᠭ᠎ᠠ ᠶᠢ ᠬᠡᠷᠡᠭᠵᠢᠭᠦᠯᠬᠦ ᠃ ᠮᠣᠩᠭᠣᠯ ᠦᠨᠳᠦᠰᠦᠲᠡᠨ ᠦ ᠦᠯᠡᠮᠵᠢ ᠰᠣᠶᠣᠯ ᠢ ᠬᠠᠮᠠᠭᠠᠯᠠᠨ ᠬᠥᠭᠵᠢᠭᠦᠯᠬᠦ ᠶᠢᠨ ᠲᠥᠯᠦᠭᠡ ᠶᠡᠬᠡ ᠠᠵᠢᠯ ᠢ ᠶᠠᠪᠤᠭᠤᠯᠵᠤ ᠪᠠᠶᠢᠨ᠎ᠠ ᠃ ᠡᠨᠡ ᠨᠢ ᠦᠨᠳᠦᠰᠦᠲᠡᠨ ᠦ ᠰᠤᠷᠭᠠᠯ ᠬᠦᠮᠦᠵᠢᠯ ᠢ ᠳᠡᠭᠡᠭᠰᠢᠯᠡᠭᠦᠯᠬᠦ ᠳᠦ ᠴᠢᠬᠤᠯᠠ ᠠᠴᠠ ᠤᠯᠤᠰ ᠲᠥᠷᠦ ᠶᠢᠨ ᠪᠣᠳᠯᠣᠭ᠎ᠠ ᠶᠢ ᠬᠡᠷᠡᠭᠵᠢᠭᠦᠯᠬᠦ ᠃ ᠮᠣᠩᠭᠣᠯ ᠦᠨᠳᠦᠰᠦᠲᠡᠨ ᠦ ᠦᠯᠡᠮᠵᠢ ᠰᠣᠶᠣᠯ ᠢ ᠬᠠᠮᠠᠭᠠᠯᠠᠨ ᠬᠥᠭᠵᠢᠭᠦᠯᠬᠦ ᠶᠢᠨ ᠲᠥᠯᠦᠭᠡ ᠶᠡᠬᠡ ᠠᠵᠢᠯ ᠢ ᠶᠠᠪᠤᠭᠤᠯᠵᠤ ᠪᠠᠶᠢᠨ᠎ᠠ ᠃ ᠡᠨᠡ ᠨᠢ ᠦᠨᠳᠦᠰᠦᠲᠡᠨ ᠦ ᠰᠤᠷᠭᠠᠯ ᠬᠦᠮᠦᠵᠢᠯ ᠢ ᠳᠡᠭᠡᠭᠰᠢᠯᠡᠭᠦᠯᠬᠦ ᠳᠦ ᠴᠢᠬᠤᠯᠠ ᠠᠴᠠ ᠤᠯᠤᠰ ᠲᠥᠷᠦ ᠶᠢᠨ ᠪᠣᠳᠯᠣᠭ᠎ᠠ ᠶᠢ ᠬᠡᠷᠡᠭᠵᠢᠭᠦᠯᠬᠦ ᠃ ᠮᠣᠩᠭᠣᠯ ᠦᠨᠳᠦᠰᠦᠲᠡᠨ ᠦ ᠦᠯᠡᠮᠵᠢ ᠰᠣᠶᠣᠯ ᠢ ᠬᠠᠮᠠᠭᠠᠯᠠᠨ ᠬᠥᠭᠵᠢᠭᠦᠯᠬᠦ ᠶᠢᠨ ᠲᠥᠯᠦᠭᠡ ᠶᠡᠬᠡ ᠠᠵᠢᠯ ᠢ ᠶᠠᠪᠤᠭᠤᠯᠵᠤ ᠪᠠᠶᠢᠨ᠎ᠠ ᠃ ᠡᠨᠡ ᠨᠢ ᠦᠨᠳᠦᠰᠦᠲᠡᠨ ᠦ ᠰᠤᠷᠭᠠᠯ ᠬᠦᠮᠦᠵᠢᠯ ᠢ ᠳᠡᠭᠡᠭᠰᠢᠯᠡᠭᠦᠯᠬᠦ ᠳᠦ ᠴᠢᠬᠤᠯᠠ ᠠᠴᠠ ᠤᠯᠤᠰ ᠲᠥᠷᠦ ᠶᠢᠨ ᠪᠣᠳᠯᠣᠭ᠎ᠠ ᠶᠢ ᠬᠡᠷᠡᠭᠵᠢᠭᠦᠯᠬᠦ ᠃ ᠮᠣᠩᠭᠣᠯ ᠦᠨᠳᠦᠰᠦᠲᠡᠨ ᠦ ᠦᠯᠡᠮᠵᠢ ᠰᠣᠶᠣᠯ ᠢ ᠬᠠᠮᠠᠭᠠᠯᠠᠨ ᠬᠥᠭᠵᠢᠭᠦᠯᠬᠦ ᠶᠢᠨ ᠲᠥᠯᠦᠭᠡ ᠶᠡᠬᠡ ᠠᠵᠢᠯ ᠢ ᠶᠠᠪᠤᠭᠤᠯᠵᠤ ᠪᠠᠶᠢᠨ᠎ᠠ ᠃ ᠡᠨᠡ ᠨᠢ ᠦᠨᠳᠦᠰᠦᠲᠡᠨ ᠦ ᠰᠤᠷᠭᠠᠯ ᠬᠦᠮᠦᠵᠢᠯ ᠢ ᠳᠡᠭᠡᠭᠰᠢᠯᠡᠭᠦᠯᠬᠦ ᠳᠦ ᠴᠢᠬᠤᠯᠠ ᠠᠴᠠ ᠤᠯᠤᠰ ᠲᠥᠷᠦ ᠶᠢᠨ ᠪᠣᠳᠯᠣᠭ᠎ᠠ ᠶᠢ ᠬᠡᠷᠡᠭᠵᠢᠭᠦᠯᠬᠦ ᠃ ᠮᠣᠩᠭᠣᠯ ᠦᠨᠳᠦᠰᠦᠲᠡᠨ ᠦ ᠦᠯᠡᠮᠵᠢ ᠰᠣᠶᠣᠯ ᠢ ᠬᠠᠮᠠᠭᠠᠯᠠᠨ ᠬᠥᠭᠵᠢᠭᠦᠯᠬᠦ ᠶᠢᠨ ᠲᠥᠯᠦᠭᠡ ᠶᠡᠬᠡ ᠠᠵᠢᠯ ᠢ ᠶᠠᠪᠤᠭᠤᠯᠵᠤ ᠪᠠᠶᠢᠨ᠎ᠠ ᠃ ᠡᠨᠡ ᠨᠢ ᠦᠨᠳᠦᠰᠦᠲᠡᠨ ᠦ ᠰᠤᠷᠭᠠᠯ ᠬᠦᠮᠦᠵᠢᠯ ᠢ ᠳᠡᠭᠡᠭᠰᠢᠯᠡᠭᠦᠯᠬᠦ ᠳᠦ ᠴᠢᠬᠤᠯᠠ ᠠᠴᠠ ᠤᠯᠤᠰ ᠲᠥᠷᠦ ᠶᠢᠨ ᠪᠣᠳᠯᠣᠭ᠎ᠠ ᠶᠢ ᠬᠡᠷᠡᠭᠵᠢᠭᠦᠯᠬᠦ ᠃ ᠮᠣᠩᠭᠣᠯ ᠦᠨᠳᠦᠰᠦᠲᠡᠨ ᠦ ᠦᠯᠡᠮᠵᠢ ᠰᠣᠶᠣᠯ ᠢ ᠬᠠᠮᠠᠭᠠᠯᠠᠨ ᠬᠥᠭᠵᠢᠭᠦᠯᠬᠦ ᠶᠢᠨ ᠲᠥᠯᠦᠭᠡ ᠶᠡᠬᠡ ᠠᠵᠢᠯ ᠢ ᠶᠠᠪᠤᠭᠤᠯᠵᠤ ᠪᠠᠶᠢᠨ᠎ᠠ ᠃ ᠡᠨᠡ ᠨᠢ ᠦᠨᠳᠦᠰᠦᠲᠡᠨ ᠦ ᠰᠤᠷᠭᠠᠯ ᠬᠦᠮᠦᠵᠢᠯ ᠢ ᠳᠡᠭᠡᠭᠰᠢᠯᠡᠭᠦᠯᠬᠦ ᠳᠦ ᠴᠢᠬᠤᠯᠠ ᠠᠴᠠ ᠤᠯᠤᠰ ᠲᠥᠷᠦ ᠶᠢᠨ ᠪᠣᠳᠯᠣᠭ᠎ᠠ ᠶᠢ ᠬᠡᠷᠡᠭᠵᠢᠭᠦᠯᠬᠦ ᠃ ᠮᠣᠩᠭᠣᠯ ᠦᠨᠳᠦᠰᠦᠲᠡᠨ ᠦ ᠦᠯᠡᠮᠵᠢ ᠰᠣᠶᠣᠯ ᠢ ᠬᠠᠮᠠᠭᠠᠯᠠᠨ ᠬᠥᠭᠵᠢᠭᠦᠯᠬᠦ ᠶᠢᠨ ᠲᠥᠯᠦᠭᠡ ᠶᠡᠬᠡ ᠠᠵᠢᠯ ᠢ ᠶᠠᠪᠤᠭᠤᠯᠵᠤ ᠪᠠᠶᠢᠨ᠎ᠠ ᠃ ᠡᠨᠡ ᠨᠢ ᠦᠨᠳᠦᠰᠦᠲᠡᠨ ᠦ ᠰᠤᠷᠭᠠᠯ ᠬᠦᠮᠦᠵᠢᠯ ᠢ ᠳᠡᠭᠡᠭᠰᠢᠯᠡᠭᠦᠯᠬᠦ ᠳᠦ ᠴᠢᠬᠤᠯᠠ ᠠᠴᠠ ᠤᠯᠤᠰ ᠲᠥᠷᠦ ᠶᠢᠨ ᠪᠣᠳᠯᠣᠭ᠎ᠠ ᠶᠢ ᠬᠡᠷᠡᠭᠵᠢᠭᠦᠯᠬᠦ ᠃ ᠮᠣᠩᠭᠣᠯ ᠦᠨᠳᠦᠰᠦᠲᠡᠨ ᠦ ᠦᠯᠡᠮᠵᠢ ᠰᠣᠶᠣᠯ ᠢ ᠬᠠᠮᠠᠭᠠᠯᠠᠨ ᠬᠥᠭᠵᠢᠭᠦᠯᠬᠦ ᠶᠢᠨ ᠲᠥᠯᠦᠭᠡ ᠶᠡᠬᠡ ᠠᠵᠢᠯ ᠢ ᠶᠠᠪᠤᠭᠤᠯᠵᠤ ᠪᠠᠶᠢᠨ᠎ᠠ ᠃ ᠡᠨᠡ ᠨᠢ ᠦᠨᠳᠦᠰᠦᠲᠡᠨ ᠦ ᠰᠤᠷᠭᠠᠯ ᠬᠦᠮᠦᠵᠢᠯ ᠢ ᠳᠡᠭᠡᠭᠰᠢᠯᠡᠭᠦᠯᠬᠦ ᠳᠦ ᠴᠢᠬᠤᠯᠠ ᠠᠴᠠ ᠤᠯᠤᠰ ᠲᠥᠷᠦ ᠶᠢᠨ ᠪᠣᠳᠯᠣᠭ᠎ᠠ ᠶᠢ ᠬᠡᠷᠡᠭᠵᠢᠭᠦᠯᠬᠦ ᠃ ᠮᠣᠩᠭᠣᠯ ᠦᠨᠳᠦᠰᠦᠲᠡᠨ ᠦ ᠦᠯᠡᠮᠵᠢ ᠰᠣᠶᠣᠯ ᠢ ᠬᠠᠮᠠᠭᠠᠯᠠᠨ ᠬᠥᠭᠵᠢᠭᠦᠯᠬᠦ ᠶᠢᠨ ᠲᠥᠯᠦᠭᠡ ᠶᠡᠬᠡ ᠠᠵᠢᠯ ᠢ ᠶᠠᠪᠤᠭᠤᠯᠵᠤ ᠪᠠᠶᠢᠨ᠎ᠠ ᠃ ᠡᠨᠡ ᠨᠢ ᠦᠨᠳᠦᠰᠦᠲᠡᠨ ᠦ ᠰᠤᠷᠭᠠᠯ ᠬᠦᠮᠦᠵᠢᠯ ᠢ ᠳᠡᠭᠡᠭᠰᠢᠯᠡᠭᠦᠯᠬᠦ ᠳᠦ ᠴᠢᠬᠤᠯᠠ ᠠᠴᠠ ᠤᠯᠤᠰ ᠲᠥᠷᠦ ᠶᠢᠨ ᠪᠣᠳᠯᠣᠭ᠎ᠠ ᠶᠢ ᠬᠡᠷᠡᠭᠵᠢᠭᠦᠯᠬᠦ ᠃ ᠮᠣᠩᠭᠣᠯ ᠦᠨᠳᠦᠰᠦᠲᠡᠨ ᠦ ᠦᠯᠡᠮᠵᠢ ᠰᠣᠶᠣᠯ ᠢ ᠬᠠᠮᠠᠭᠠᠯᠠᠨ ᠬᠥᠭᠵᠢᠭᠦᠯᠬᠦ ᠶᠢᠨ ᠲᠥᠯᠦᠭᠡ ᠶᠡᠬᠡ ᠠᠵᠢᠯ ᠢ ᠶᠠᠪᠤᠭᠤᠯᠵᠤ ᠪᠠᠶᠢᠨ᠎ᠠ ᠃ ᠡᠨᠡ ᠨᠢ ᠦᠨᠳᠦᠰᠦᠲᠡᠨ ᠦ ᠰᠤᠷᠭᠠᠯ ᠬᠦᠮᠦᠵᠢᠯ ᠢ ᠳᠡᠭᠡᠭᠰᠢᠯᠡᠭᠦᠯᠬᠦ ᠳᠦ ᠴᠢᠬᠤᠯᠠ ᠠᠴᠠ ᠤᠯᠤᠰ ᠲᠥᠷᠦ ᠶᠢᠨ ᠪᠣᠳᠯᠣᠭ᠎ᠠ ᠶᠢ ᠬᠡᠷᠡᠭᠵᠢᠭᠦᠯᠬᠦ ᠃ ᠮᠣᠩᠭᠣᠯ ᠦᠨᠳᠦᠰᠦᠲᠡᠨ ᠦ ᠦᠯᠡᠮᠵᠢ ᠰᠣᠶᠣᠯ ᠢ ᠬᠠᠮᠠᠭᠠᠯᠠᠨ ᠬᠥᠭᠵᠢᠭᠦᠯᠬᠦ ᠶᠢᠨ ᠲᠥᠯᠦᠭᠡ ᠶᠡᠬᠡ ᠠᠵᠢᠯ ᠢ ᠶᠠᠪᠤᠭᠤᠯᠵᠤ ᠪᠠᠶᠢᠨ᠎ᠠ ᠃ ᠡᠨᠡ ᠨᠢ ᠦᠨᠳᠦᠰᠦᠲᠡᠨ ᠦ ᠰᠤᠷᠭᠠᠯ ᠬᠦᠮᠦᠵᠢᠯ ᠢ ᠳᠡᠭᠡᠭᠰᠢᠯᠡᠭᠦᠯᠬᠦ ᠳᠦ ᠴᠢᠬᠤᠯᠠ ᠠᠴᠠ ᠤᠯᠤᠰ ᠲᠥᠷᠦ ᠶᠢᠨ ᠪᠣᠳᠯᠣᠭ᠎ᠠ ᠶᠢ ᠬᠡᠷᠡᠭᠵᠢᠭᠦᠯᠬᠦ ᠃ ᠮᠣᠩᠭᠣᠯ ᠦᠨᠳᠦᠰᠦᠲᠡᠨ ᠦ ᠦᠯᠡᠮᠵᠢ ᠰᠣᠶᠣᠯ ᠢ ᠬᠠᠮᠠᠭᠠᠯᠠᠨ ᠬᠥᠭᠵᠢᠭᠦᠯᠬᠦ ᠶᠢᠨ ᠲᠥᠯᠦᠭᠡ ᠶᠡᠬᠡ ᠠᠵᠢᠯ ᠢ ᠶᠠᠪᠤᠭᠤᠯᠵᠤ ᠪᠠᠶᠢᠨ᠎ᠠ ᠃ ᠡᠨᠡ ᠨᠢ ᠦᠨᠳᠦᠰᠦᠲᠡᠨ ᠦ ᠰᠤᠷᠭᠠᠯ ᠬᠦᠮᠦᠵᠢᠯ ᠢ ᠳᠡᠭᠡᠭᠰᠢᠯᠡᠭᠦᠯᠬᠦ ᠳᠦ ᠴᠢᠬᠤᠯᠠ ᠠᠴᠠ ᠤᠯᠤᠰ ᠲᠥᠷᠦ ᠶᠢᠨ ᠪᠣᠳᠯᠣᠭ᠎ᠠ ᠶᠢ ᠬᠡᠷᠡᠭᠵᠢᠭᠦᠯᠬᠦ ᠃ ᠮᠣᠩᠭᠣᠯ ᠦᠨᠳᠦᠰᠦᠲᠡᠨ ᠦ ᠦᠯᠡᠮᠵᠢ ᠰᠣᠶᠣᠯ ᠢ ᠬᠠᠮᠠᠭᠠᠯᠠᠨ ᠬᠥᠭᠵᠢᠭᠦᠯᠬᠦ ᠶᠢᠨ ᠲᠥᠯᠦᠭᠡ ᠶᠡᠬᠡ ᠠᠵᠢᠯ ᠢ ᠶᠠᠪᠤᠭᠤᠯᠵᠤ ᠪᠠᠶᠢᠨ᠎ᠠ ᠃ ᠡᠨᠡ ᠨᠢ ᠦᠨᠳᠦᠰᠦᠲᠡᠨ ᠦ ᠰᠤᠷᠭᠠᠯ ᠬᠦᠮᠦᠵᠢᠯ ᠢ ᠳᠡᠭᠡᠭᠰᠢᠯᠡᠭᠦᠯᠬᠦ ᠳᠦ ᠴᠢᠬᠤᠯᠠ ᠠᠴᠠ ᠤᠯᠤᠰ ᠲᠥᠷᠦ ᠶᠢᠨ ᠪᠣᠳᠯᠣᠭ᠎ᠠ ᠶᠢ ᠬᠡᠷᠡᠭᠵᠢᠭᠦᠯᠬᠦ ᠃ ᠮᠣᠩᠭᠣᠯ ᠦᠨᠳᠦᠰᠦᠲᠡᠨ ᠦ ᠦᠯᠡᠮᠵᠢ ᠰᠣᠶᠣᠯ ᠢ ᠬᠠᠮᠠᠭᠠᠯᠠᠨ ᠬᠥᠭᠵᠢᠭᠦᠯᠬᠦ ᠶᠢᠨ ᠲᠥᠯᠦᠭᠡ ᠶᠡᠬᠡ ᠠᠵᠢᠯ ᠢ ᠶᠠᠪᠤᠭᠤᠯᠵᠤ ᠪᠠᠶᠢᠨ᠎ᠠ ᠃ ᠡᠨᠡ ᠨᠢ ᠦᠨᠳᠦᠰᠦᠲᠡᠨ ᠦ ᠰᠤᠷᠭᠠᠯ ᠬᠦᠮᠦᠵᠢᠯ ᠢ ᠳᠡᠭᠡᠭᠰᠢᠯᠡᠭᠦᠯᠬᠦ ᠳᠦ ᠴᠢᠬᠤᠯᠠ ᠠᠴᠠ ᠤᠯᠤᠰ ᠲᠥᠷᠦ ᠶᠢᠨ ᠪᠣᠳᠯᠣᠭ᠎ᠠ ᠶᠢ ᠬᠡᠷᠡᠭᠵᠢᠭᠦᠯᠬᠦ ᠃ ᠮᠣᠩᠭᠣᠯ ᠦᠨᠳᠦᠰᠦᠲᠡᠨ ᠦ ᠦᠯᠡᠮᠵᠢ ᠰᠣᠶᠣᠯ ᠢ ᠬᠠᠮᠠᠭᠠᠯᠠᠨ ᠬᠥᠭᠵᠢᠭᠦᠯᠬᠦ ᠶᠢᠨ ᠲᠥᠯᠦᠭᠡ ᠶᠡᠬᠡ ᠠᠵᠢᠯ ᠢ ᠶᠠᠪᠤᠭᠤᠯᠵᠤ ᠪᠠᠶᠢᠨ᠎ᠠ ᠃ ᠡᠨᠡ ᠨᠢ ᠦᠨᠳᠦᠰᠦᠲᠡᠨ ᠦ ᠰᠤᠷᠭᠠᠯ ᠬᠦᠮᠦᠵᠢᠯ ᠢ ᠳᠡᠭᠡᠭᠰᠢᠯᠡᠭᠦᠯᠬᠦ ᠳᠦ ᠴᠢᠬᠤᠯᠠ ᠠᠴᠠ ᠤᠯᠤᠰ ᠲᠥᠷᠦ ᠶᠢᠨ ᠪᠣᠳᠯᠣᠭ᠎ᠠ ᠶᠢ ᠬᠡᠷᠡᠭᠵᠢᠭᠦᠯᠬᠦ ᠃ ᠮᠣᠩᠭᠣᠯ ᠦᠨᠳᠦᠰᠦᠲᠡᠨ ᠦ ᠦᠯᠡᠮᠵᠢ ᠰᠣᠶᠣᠯ ᠢ ᠬᠠᠮᠠᠭᠠᠯᠠᠨ ᠬᠥᠭᠵᠢᠭᠦᠯᠬᠦ ᠶᠢᠨ ᠲᠥᠯᠦᠭᠡ ᠶᠡᠬᠡ ᠠᠵᠢᠯ ᠢ ᠶᠠᠪᠤᠭᠤᠯᠵᠤ ᠪᠠᠶᠢᠨ᠎ᠠ ᠃ ᠡᠨᠡ ᠨᠢ ᠦᠨᠳᠦᠰᠦᠲᠡᠨ ᠦ ᠰᠤᠷᠭᠠᠯ ᠬᠦᠮᠦᠵᠢᠯ ᠢ ᠳᠡᠭᠡᠭᠰᠢᠯᠡᠭᠦᠯᠬᠦ ᠳᠦ ᠴᠢᠬᠤᠯᠠ ᠠᠴᠠ ᠤᠯᠤᠰ ᠲᠥᠷᠦ ᠶᠢᠨ ᠪᠣᠳᠯᠣᠭ᠎ᠠ ᠶᠢ ᠬᠡᠷᠡᠭᠵᠢᠭᠦᠯᠬᠦ ᠃ ᠮᠣᠩᠭᠣᠯ ᠦᠨᠳᠦᠰᠦᠲᠡᠨ ᠦ ᠦᠯᠡᠮᠵᠢ ᠰᠣᠶᠣᠯ ᠢ ᠬᠠᠮᠠᠭᠠᠯᠠᠨ ᠬᠥᠭᠵᠢᠭᠦᠯᠬᠦ ᠶᠢᠨ ᠲᠥᠯᠦᠭᠡ ᠶᠡᠬᠡ ᠠᠵᠢᠯ ᠢ ᠶᠠᠪᠤᠭᠤᠯᠵᠤ ᠪᠠᠶᠢᠨ᠎ᠠ ᠃ ᠡᠨᠡ ᠨᠢ ᠦᠨᠳᠦᠰᠦᠲᠡᠨ ᠦ ᠰᠤᠷᠭᠠᠯ ᠬᠦᠮᠦᠵᠢᠯ ᠢ ᠳᠡᠭᠡᠭᠰᠢᠯᠡᠭᠦᠯᠬᠦ ᠳᠦ ᠴᠢᠬᠤᠯᠠ ᠠᠴᠠ ᠤᠯᠤᠰ ᠲᠥᠷᠦ ᠶᠢᠨ ᠪᠣᠳᠯᠣᠭ᠎ᠠ ᠶᠢ ᠬᠡᠷᠡᠭᠵᠢᠭᠦᠯᠬᠦ ᠃ ᠮᠣᠩᠭᠣᠯ ᠦᠨᠳᠦᠰᠦᠲᠡᠨ ᠦ ᠦᠯᠡᠮᠵᠢ ᠰᠣᠶᠣᠯ ᠢ ᠬᠠᠮᠠᠭᠠᠯᠠᠨ ᠬᠥᠭᠵᠢᠭᠦᠯᠬᠦ ᠶᠢᠨ ᠲᠥᠯᠦᠭᠡ ᠶᠡᠬᠡ ᠠᠵᠢᠯ ᠢ ᠶᠠᠪᠤᠭᠤᠯᠵᠤ ᠪᠠᠶᠢᠨ᠎ᠠ ᠃ ᠡᠨᠡ ᠨᠢ ᠦᠨᠳᠦᠰᠦᠲᠡᠨ ᠦ ᠰᠤᠷᠭᠠᠯ ᠬᠦᠮᠦᠵᠢᠯ ᠢ ᠳᠡᠭᠡᠭᠰᠢᠯᠡᠭᠦᠯᠬᠦ ᠳᠦ ᠴᠢᠬᠤᠯᠠ ᠠᠴᠠ ᠤᠯᠤᠰ ᠲᠥᠷᠦ ᠶᠢᠨ ᠪᠣᠳᠯᠣᠭ᠎ᠠ ᠶᠢ ᠬᠡᠷᠡᠭᠵᠢᠭᠦᠯᠬᠦ ᠃ ᠮᠣᠩᠭᠣᠯ ᠦᠨᠳᠦᠰᠦᠲᠡᠨ ᠦ ᠦᠯᠡᠮᠵᠢ ᠰᠣᠶᠣᠯ ᠢ ᠬᠠᠮᠠᠭᠠᠯᠠᠨ ᠬᠥᠭᠵᠢᠭᠦᠯᠬᠦ ᠶᠢᠨ ᠲᠥᠯᠦᠭᠡ ᠶᠡᠬᠡ ᠠᠵᠢᠯ ᠢ ᠶᠠᠪᠤᠭᠤᠯᠵᠤ ᠪᠠᠶᠢᠨ᠎ᠠ ᠃ ᠡᠨᠡ ᠨᠢ ᠦᠨᠳᠦᠰᠦᠲᠡᠨ ᠦ ᠰᠤᠷᠭᠠᠯ ᠬᠦᠮᠦᠵᠢᠯ ᠢ ᠳᠡᠭᠡᠭᠰᠢᠯᠡᠭᠦᠯᠬᠦ ᠳᠦ ᠴᠢᠬᠤᠯᠠ ᠠᠴᠠ ᠤᠯᠤᠰ ᠲᠥᠷᠦ ᠶᠢᠨ ᠪᠣᠳᠯᠣᠭ᠎ᠠ ᠶᠢ ᠬᠡᠷᠡᠭᠵᠢᠭᠦᠯᠬᠦ ᠃ ᠮᠣᠩᠭᠣᠯ ᠦᠨᠳᠦᠰᠦᠲᠡᠨ ᠦ ᠦᠯᠡᠮᠵᠢ ᠰᠣᠶᠣᠯ ᠢ ᠬᠠᠮᠠᠭᠠᠯᠠᠨ ᠬᠥᠭᠵᠢᠭᠦᠯᠬᠦ ᠶᠢᠨ ᠲᠥᠯᠦᠭᠡ ᠶᠡᠬᠡ ᠠᠵᠢᠯ ᠢ ᠶᠠᠪᠤᠭᠤᠯᠵᠤ ᠪᠠᠶᠢᠨ᠎ᠠ ᠃ ᠡᠨᠡ ᠨᠢ ᠦᠨᠳᠦᠰᠦᠲᠡᠨ ᠦ ᠰᠤᠷᠭᠠᠯ ᠬᠦᠮᠦᠵᠢᠯ ᠢ ᠳᠡᠭᠡᠭᠰᠢᠯᠡᠭᠦᠯᠬᠦ ᠳᠦ ᠴᠢᠬᠤᠯᠠ ᠠᠴᠠ ᠤᠯᠤᠰ ᠲᠥᠷᠦ ᠶᠢᠨ ᠪᠣᠳᠯᠣᠭ᠎ᠠ ᠶᠢ ᠬᠡᠷᠡᠭᠵᠢᠭᠦᠯᠬᠦ ᠃ ᠮᠣᠩᠭᠣᠯ ᠦᠨᠳᠦᠰᠦᠲᠡᠨ ᠦ ᠦᠯᠡᠮᠵᠢ ᠰᠣᠶᠣᠯ ᠢ ᠬᠠᠮᠠᠭᠠᠯᠠᠨ ᠬᠥᠭᠵᠢᠭᠦᠯᠬᠦ ᠶᠢᠨ ᠲᠥᠯᠦᠭᠡ ᠶᠡᠬᠡ ᠠᠵᠢᠯ ᠢ ᠶᠠᠪᠤᠭᠤᠯᠵᠤ ᠪᠠᠶᠢᠨ᠎ᠠ ᠃ ᠡᠨᠡ ᠨᠢ ᠦᠨᠳᠦᠰᠦᠲᠡᠨ ᠦ ᠰᠤᠷᠭᠠᠯ ᠬᠦᠮᠦᠵᠢᠯ ᠢ ᠳᠡᠭᠡᠭᠰᠢᠯᠡᠭᠦᠯᠬᠦ ᠳᠦ ᠴᠢᠬᠤᠯᠠ ᠠᠴᠠ ᠤᠯᠤᠰ ᠲᠥᠷᠦ ᠶᠢᠨ ᠪᠣᠳᠯᠣᠭ᠎ᠠ ᠶᠢ ᠬᠡᠷᠡᠭᠵᠢᠭᠦᠯᠬᠦ ᠃ ᠮᠣᠩᠭᠣᠯ ᠦᠨᠳᠦᠰᠦᠲᠡᠨ ᠦ ᠦᠯᠡᠮᠵᠢ ᠰᠣᠶᠣᠯ ᠢ ᠬᠠᠮᠠᠭᠠᠯᠠᠨ ᠬᠥᠭᠵᠢᠭᠦᠯᠬᠦ ᠶᠢᠨ ᠲᠥᠯᠦᠭᠡ ᠶᠡᠬᠡ ᠠᠵᠢᠯ ᠢ ᠶᠠᠪᠤᠭᠤᠯᠵᠤ ᠪᠠᠶᠢᠨ᠎ᠠ ᠃ ᠡᠨᠡ ᠨᠢ ᠦᠨᠳᠦᠰᠦᠲᠡᠨ ᠦ ᠰᠤᠷᠭᠠᠯ ᠬᠦᠮᠦᠵᠢᠯ ᠢ ᠳᠡᠭᠡᠭᠰᠢᠯᠡᠭᠦᠯᠬᠦ ᠳᠦ ᠴᠢᠬᠤᠯᠠ ᠠᠴᠠ ᠤᠯᠤᠰ ᠲᠥᠷᠦ ᠶᠢᠨ ᠪᠣᠳᠯᠣᠭ᠎ᠠ ᠶᠢ ᠬᠡᠷᠡᠭᠵᠢᠭᠦᠯᠬᠦ ᠃ ᠮᠣᠩᠭᠣᠯ ᠦᠨᠳᠦᠰᠦᠲᠡᠨ ᠦ ᠦᠯᠡᠮᠵᠢ ᠰᠣᠶᠣᠯ ᠢ ᠬᠠᠮᠠᠭᠠᠯᠠᠨ ᠬᠥᠭᠵᠢᠭᠦᠯᠬᠦ ᠶᠢᠨ ᠲᠥᠯᠦᠭᠡ ᠶᠡᠬᠡ ᠠᠵᠢᠯ ᠢ ᠶᠠᠪᠤᠭᠤᠯᠵᠤ ᠪᠠᠶᠢᠨ᠎ᠠ ᠃ ᠡᠨᠡ ᠨᠢ ᠦᠨᠳᠦᠰᠦᠲᠡᠨ ᠦ ᠰᠤᠷᠭᠠᠯ ᠬᠦᠮᠦᠵᠢᠯ ᠢ ᠳᠡᠭᠡᠭᠰᠢᠯᠡᠭᠦᠯᠬᠦ ᠳᠦ ᠴᠢᠬᠤᠯᠠ ᠠᠴᠠ ᠤᠯᠤᠰ ᠲᠥᠷᠦ ᠶᠢᠨ ᠪᠣᠳᠯᠣᠭ᠎ᠠ ᠶᠢ ᠬᠡᠷᠡᠭᠵᠢᠭᠦᠯᠬᠦ ᠃ ᠮᠣᠩᠭᠣᠯ ᠦᠨᠳᠦᠰᠦᠲᠡᠨ ᠦ ᠦᠯᠡᠮᠵᠢ ᠰᠣᠶᠣᠯ ᠢ ᠬᠠᠮᠠᠭᠠᠯᠠᠨ ᠬᠥᠭᠵᠢᠭᠦᠯᠬᠦ ᠶᠢᠨ ᠲᠥᠯᠦᠭᠡ ᠶᠡᠬᠡ ᠠᠵᠢᠯ ᠢ ᠶᠠᠪᠤᠭᠤᠯᠵᠤ ᠪᠠᠶᠢᠨ᠎ᠠ ᠃ ᠡᠨᠡ ᠨᠢ ᠦᠨᠳᠦᠰᠦᠲᠡᠨ ᠦ ᠰᠤᠷᠭᠠᠯ ᠬᠦᠮᠦᠵᠢᠯ ᠢ ᠳᠡᠭᠡᠭᠰᠢᠯᠡᠭᠦᠯᠬᠦ ᠳᠦ ᠴᠢᠬᠤᠯᠠ ᠠᠴᠠ ᠤᠯᠤᠰ ᠲᠥᠷᠦ ᠶᠢᠨ ᠪᠣᠳᠯᠣᠭ᠎ᠠ ᠶᠢ ᠬᠡᠷᠡᠭᠵᠢᠭᠦᠯᠬᠦ ᠃ ᠮᠣᠩᠭᠣᠯ ᠦᠨᠳᠦᠰᠦᠲᠡᠨ ᠦ ᠦᠯᠡᠮᠵᠢ ᠰᠣᠶᠣᠯ ᠢ ᠬᠠᠮᠠᠭᠠᠯᠠᠨ ᠬᠥᠭᠵᠢᠭᠦᠯᠬᠦ ᠶᠢᠨ ᠲᠥᠯᠦᠭᠡ ᠶᠡᠬᠡ ᠠᠵᠢᠯ ᠢ ᠶᠠᠪᠤᠭᠤᠯᠵᠤ ᠪᠠᠶᠢᠨ᠎ᠠ ᠃ ᠡᠨᠡ ᠨᠢ ᠦᠨᠳᠦᠰᠦᠲᠡᠨ ᠦ ᠰᠤᠷᠭᠠᠯ ᠬᠦᠮᠦᠵᠢᠯ ᠢ ᠳᠡᠭᠡᠭᠰᠢᠯᠡᠭᠦᠯᠬᠦ ᠳᠦ ᠴᠢᠬᠤᠯᠠ ᠠᠴᠠ ᠤᠯᠤᠰ ᠲᠥᠷᠦ ᠶᠢᠨ ᠪᠣᠳᠯᠣᠭ᠎ᠠ ᠶᠢ ᠬᠡᠷᠡᠭᠵᠢᠭᠦᠯᠬᠦ ᠃ ᠮᠣᠩᠭᠣᠯ ᠦᠨᠳᠦᠰᠦᠲᠡᠨ ᠦ ᠦᠯᠡᠮᠵᠢ ᠰᠣᠶᠣᠯ ᠢ ᠬᠠᠮᠠᠭᠠᠯᠠᠨ ᠬᠥᠭᠵᠢᠭᠦᠯᠬᠦ ᠶᠢᠨ ᠲᠥᠯᠦᠭᠡ ᠶᠡᠬᠡ ᠠᠵᠢᠯ ᠢ ᠶᠠᠪᠤᠭᠤᠯᠵᠤ ᠪᠠᠶᠢᠨ᠎ᠠ ᠃ ᠡᠨᠡ ᠨᠢ ᠦᠨᠳᠦᠰᠦᠲᠡᠨ ᠦ ᠰᠤᠷᠭᠠᠯ ᠬᠦᠮᠦᠵᠢᠯ ᠢ ᠳᠡᠭᠡᠭᠰᠢᠯᠡᠭᠦᠯᠬᠦ ᠳᠦ ᠴᠢᠬᠤᠯᠠ ᠠᠴᠠ ᠤᠯᠤᠰ ᠲᠥᠷᠦ ᠶᠢᠨ ᠪᠣᠳᠯᠣᠭ᠎ᠠ ᠶᠢ ᠬᠡᠷᠡᠭᠵᠢᠭᠦᠯᠬᠦ ᠃ ᠮᠣᠩᠭᠣᠯ ᠦᠨᠳᠦᠰᠦᠲᠡᠨ ᠦ ᠦᠯᠡᠮᠵᠢ ᠰᠣᠶᠣᠯ ᠢ ᠬᠠᠮᠠᠭᠠᠯᠠᠨ ᠬᠥᠭᠵᠢᠭᠦᠯᠬᠦ ᠶᠢᠨ ᠲᠥᠯᠦᠭᠡ ᠶᠡᠬᠡ ᠠᠵᠢᠯ ᠢ ᠶᠠᠪᠤᠭᠤᠯᠵᠤ ᠪᠠᠶᠢᠨ᠎ᠠ ᠃ ᠡᠨᠡ ᠨᠢ ᠦᠨᠳᠦᠰᠦᠲᠡᠨ ᠦ ᠰᠤᠷᠭᠠᠯ ᠬᠦᠮᠦᠵᠢᠯ ᠢ ᠳᠡᠭᠡᠭᠰᠢᠯᠡᠭᠦᠯᠬᠦ ᠳᠦ ᠴᠢᠬᠤᠯᠠ ᠠᠴᠠ ᠤᠯᠤᠰ ᠲᠥᠷᠦ ᠶᠢᠨ ᠪᠣᠳᠯᠣᠭ᠎ᠠ ᠶᠢ ᠬᠡᠷᠡᠭᠵᠢᠭᠦᠯᠬᠦ ᠃ ᠮᠣᠩᠭᠣᠯ ᠦᠨᠳᠦᠰᠦᠲᠡᠨ ᠦ ᠦᠯᠡᠮᠵᠢ ᠰᠣᠶᠣᠯ ᠢ ᠬᠠᠮᠠᠭᠠᠯᠠᠨ ᠬᠥᠭᠵᠢᠭᠦᠯᠬᠦ ᠶᠢᠨ ᠲᠥᠯᠦᠭᠡ ᠶᠡᠬᠡ ᠠᠵᠢᠯ ᠢ ᠶᠠᠪᠤᠭᠤᠯᠵᠤ ᠪᠠᠶᠢᠨ᠎ᠠ ᠃ ᠡᠨᠡ ᠨᠢ ᠦᠨᠳᠦᠰᠦᠲᠡᠨ ᠦ ᠰᠤᠷᠭᠠᠯ ᠬᠦᠮᠦᠵᠢᠯ ᠢ ᠳᠡᠭᠡᠭᠰᠢᠯᠡᠭᠦᠯᠬᠦ ᠳᠦ ᠴᠢᠬᠤᠯᠠ ᠠᠴᠠ ᠤᠯᠤᠰ ᠲᠥᠷᠦ ᠶᠢᠨ ᠪᠣᠳᠯᠣᠭ᠎ᠠ ᠶᠢ ᠬᠡᠷᠡᠭᠵᠢᠭᠦᠯᠬᠦ ᠃ ᠮᠣᠩᠭᠣᠯ ᠦᠨᠳᠦᠰᠦᠲᠡᠨ ᠦ ᠦᠯᠡᠮᠵᠢ ᠰᠣᠶᠣᠯ ᠢ ᠬᠠᠮᠠᠭᠠᠯᠠᠨ ᠬᠥᠭᠵᠢᠭᠦᠯᠬᠦ ᠶᠢᠨ ᠲᠥᠯᠦᠭᠡ ᠶᠡᠬᠡ ᠠᠵᠢᠯ ᠢ ᠶᠠᠪᠤᠭᠤᠯᠵᠤ ᠪᠠᠶᠢᠨ᠎ᠠ ᠃ ᠡᠨᠡ ᠨᠢ ᠦᠨᠳᠦᠰᠦᠲᠡᠨ ᠦ ᠰᠤᠷᠭᠠᠯ ᠬᠦᠮᠦᠵᠢᠯ ᠢ ᠳᠡᠭᠡᠭᠰᠢᠯᠡᠭᠦᠯᠬᠦ ᠳᠦ ᠴᠢᠬᠤᠯᠠ ᠠᠴᠠ ᠤᠯᠤᠰ ᠲᠥᠷᠦ ᠶᠢᠨ ᠪᠣᠳᠯᠣᠭ᠎ᠠ ᠶᠢ ᠬᠡᠷᠡᠭᠵᠢᠭᠦᠯᠬᠦ ᠃ ᠮᠣᠩᠭᠣᠯ ᠦᠨᠳᠦᠰᠦᠲᠡᠨ ᠦ ᠦᠯᠡᠮᠵᠢ ᠰᠣᠶᠣᠯ ᠢ ᠬᠠᠮᠠᠭᠠᠯᠠᠨ ᠬᠥᠭᠵᠢᠭᠦᠯᠬᠦ ᠶᠢᠨ ᠲᠥᠯᠦᠭᠡ ᠶᠡᠬᠡ ᠠᠵᠢᠯ ᠢ ᠶᠠᠪᠤᠭᠤᠯᠵᠤ ᠪᠠᠶᠢᠨ᠎ᠠ ᠃ ᠡᠨᠡ ᠨᠢ ᠦᠨᠳᠦᠰᠦᠲᠡᠨ ᠦ ᠰᠤᠷᠭᠠᠯ ᠬᠦᠮᠦᠵᠢᠯ ᠢ ᠳᠡᠭᠡᠭᠰᠢᠯᠡᠭᠦᠯᠬᠦ ᠳᠦ ᠴᠢᠬᠤᠯᠠ ᠠᠴᠠ ᠤᠯᠤᠰ ᠲᠥᠷᠦ ᠶᠢᠨ ᠪᠣᠳᠯᠣᠭ᠎ᠠ ᠶᠢ ᠬᠡᠷᠡᠭᠵᠢᠭᠦᠯᠬᠦ ᠃ ᠮᠣᠩᠭᠣᠯ ᠦᠨᠳᠦᠰᠦᠲᠡᠨ ᠦ ᠦᠯᠡᠮᠵᠢ ᠰᠣᠶᠣᠯ ᠢ ᠬᠠᠮᠠᠭᠠᠯᠠᠨ ᠬᠥᠭᠵᠢᠭᠦᠯᠬᠦ ᠶᠢᠨ ᠲᠥᠯᠦᠭᠡ ᠶᠡᠬᠡ ᠠᠵᠢᠯ ᠢ ᠶᠠᠪᠤᠭᠤᠯᠵᠤ ᠪᠠᠶᠢᠨ᠎ᠠ ᠃ ᠡᠨᠡ ᠨᠢ ᠦᠨᠳᠦᠰᠦᠲᠡᠨ ᠦ ᠰᠤᠷᠭᠠᠯ ᠬᠦᠮᠦᠵᠢᠯ ᠢ ᠳᠡᠭᠡᠭᠰᠢᠯᠡᠭᠦᠯᠬᠦ ᠳᠦ ᠴᠢᠬᠤᠯᠠ ᠠᠴᠠ ᠤᠯᠤᠰ ᠲᠥᠷᠦ ᠶᠢᠨ ᠪᠣᠳᠯᠣᠭ᠎ᠠ ᠶᠢ ᠬᠡᠷᠡᠭᠵᠢᠭᠦᠯᠬᠦ ᠃ ᠮᠣᠩᠭᠣᠯ ᠦᠨᠳᠦᠰᠦᠲᠡᠨ ᠦ ᠦᠯᠡᠮᠵᠢ ᠰᠣᠶᠣᠯ ᠢ ᠬᠠᠮᠠᠭᠠᠯᠠᠨ ᠬᠥᠭᠵᠢᠭᠦᠯᠬᠦ ᠶᠢᠨ ᠲᠥᠯᠦᠭᠡ ᠶᠡᠬᠡ ᠠᠵᠢᠯ ᠢ ᠶᠠᠪᠤᠭᠤᠯᠵᠤ ᠪᠠᠶᠢᠨ᠎ᠠ ᠃ ᠡᠨᠡ ᠨᠢ ᠦᠨᠳᠦᠰᠦᠲᠡᠨ ᠦ ᠰᠤᠷᠭᠠᠯ ᠬᠦᠮᠦᠵᠢᠯ ᠢ ᠳᠡᠭᠡᠭᠰᠢᠯᠡᠭᠦᠯᠬᠦ ᠳᠦ ᠴᠢᠬᠤᠯᠠ ᠠᠴᠠ ᠤᠯᠤᠰ ᠲᠥᠷᠦ ᠶᠢᠨ ᠪᠣᠳᠯᠣᠭ᠎ᠠ ᠶᠢ ᠬᠡᠷᠡᠭᠵᠢᠭᠦᠯᠬᠦ ᠃ ᠮᠣᠩᠭᠣᠯ ᠦᠨᠳᠦᠰᠦᠲᠡᠨ ᠦ ᠦᠯᠡᠮᠵᠢ ᠰᠣᠶᠣᠯ ᠢ ᠬᠠᠮᠠᠭᠠᠯᠠᠨ ᠬᠥᠭᠵᠢᠭᠦᠯᠬᠦ ᠶᠢᠨ ᠲᠥᠯᠦᠭᠡ ᠶᠡᠬᠡ ᠠᠵᠢᠯ ᠢ ᠶᠠᠪᠤᠭᠤᠯᠵᠤ ᠪᠠᠶᠢᠨ᠎ᠠ ᠃ ᠡᠨᠡ ᠨᠢ ᠦᠨᠳᠦᠰᠦᠲᠡᠨ ᠦ ᠰᠤᠷᠭᠠᠯ ᠬᠦᠮᠦᠵᠢᠯ ᠢ ᠳᠡᠭᠡᠭᠰᠢᠯᠡᠭᠦᠯᠬᠦ ᠳᠦ ᠴᠢᠬᠤᠯᠠ ᠠᠴᠠ ᠤᠯᠤᠰ ᠲᠥᠷᠦ ᠶᠢᠨ ᠪᠣᠳᠯᠣᠭ᠎ᠠ ᠶᠢ ᠬᠡᠷᠡᠭᠵᠢᠭᠦᠯᠬᠦ ᠃ ᠮᠣᠩᠭᠣᠯ ᠦᠨᠳᠦᠰᠦᠲᠡᠨ ᠦ ᠦᠯᠡᠮᠵᠢ ᠰᠣᠶᠣᠯ ᠢ ᠬᠠᠮᠠᠭᠠᠯᠠᠨ ᠬᠥᠭᠵᠢᠭᠦᠯᠬᠦ ᠶᠢᠨ ᠲᠥᠯᠦᠭᠡ ᠶᠡᠬᠡ ᠠᠵᠢᠯ ᠢ ᠶᠠᠪᠤᠭᠤᠯᠵᠤ ᠪᠠᠶᠢᠨ᠎ᠠ ᠃ ᠡᠨᠡ ᠨᠢ ᠦᠨᠳᠦᠰᠦᠲᠡᠨ ᠦ ᠰᠤᠷᠭᠠᠯ ᠬᠦᠮᠦᠵᠢᠯ ᠢ ᠳᠡᠭᠡᠭᠰᠢᠯᠡᠭᠦᠯᠬᠦ ᠳᠦ ᠴᠢᠬᠤᠯᠠ ᠠᠴᠠ ᠤᠯᠤᠰ ᠲᠥᠷᠦ ᠶᠢᠨ ᠪᠣᠳᠯᠣᠭ᠎ᠠ ᠶᠢ ᠬᠡᠷᠡᠭᠵᠢᠭᠦᠯᠬᠦ ᠃ ᠮᠣᠩᠭᠣᠯ ᠦᠨᠳᠦᠰᠦᠲᠡᠨ ᠦ ᠦᠯᠡᠮᠵᠢ ᠰᠣᠶᠣᠯ ᠢ ᠬᠠᠮᠠᠭᠠᠯᠠᠨ ᠬᠥᠭᠵᠢᠭᠦᠯᠬᠦ ᠶᠢᠨ ᠲᠥᠯᠦᠭᠡ ᠶᠡᠬᠡ ᠠᠵᠢᠯ ᠢ ᠶᠠᠪᠤᠭᠤᠯᠵᠤ ᠪᠠᠶᠢᠨ᠎ᠠ ᠃ ᠡᠨᠡ ᠨᠢ ᠦᠨᠳᠦᠰᠦᠲᠡᠨ ᠦ ᠰᠤᠷᠭᠠᠯ ᠬᠦᠮᠦᠵᠢᠯ ᠢ ᠳᠡᠭᠡᠭᠰᠢᠯᠡᠭᠦᠯᠬᠦ ᠳᠦ ᠴᠢᠬᠤᠯᠠ ᠠᠴᠠ ᠤᠯᠤᠰ ᠲᠥᠷᠦ ᠶᠢᠨ ᠪᠣᠳᠯᠣᠭ᠎ᠠ ᠶᠢ ᠬᠡᠷᠡᠭᠵᠢᠭᠦᠯᠬᠦ ᠃ ᠮᠣᠩᠭᠣᠯ ᠦᠨᠳᠦᠰᠦᠲᠡᠨ ᠦ ᠦᠯᠡᠮᠵᠢ ᠰᠣᠶᠣᠯ ᠢ ᠬᠠᠮᠠᠭᠠᠯᠠᠨ ᠬᠥᠭᠵᠢᠭᠦᠯᠬᠦ ᠶᠢᠨ ᠲᠥᠯᠦᠭᠡ ᠶᠡᠬᠡ ᠠᠵᠢᠯ ᠢ ᠶᠠᠪᠤᠭᠤᠯᠵᠤ ᠪᠠᠶᠢᠨ᠎ᠠ ᠃ ᠡᠨᠡ ᠨᠢ ᠦᠨᠳᠦᠰᠦᠲᠡᠨ ᠦ ᠰᠤᠷᠭᠠᠯ ᠬᠦᠮᠦᠵᠢᠯ ᠢ ᠳᠡᠭᠡᠭᠰᠢᠯᠡᠭᠦᠯᠬᠦ ᠳᠦ ᠴᠢᠬᠤᠯᠠ ᠠᠴᠠ ᠤᠯᠤᠰ ᠲᠥᠷᠦ ᠶᠢᠨ ᠪᠣᠳᠯᠣᠭ᠎ᠠ ᠶᠢ ᠬᠡᠷᠡᠭᠵᠢᠭᠦᠯᠬᠦ ᠃ ᠮᠣᠩᠭᠣᠯ ᠦᠨᠳᠦᠰᠦᠲᠡᠨ ᠦ ᠦᠯᠡᠮᠵᠢ ᠰᠣᠶᠣᠯ ᠢ ᠬᠠᠮᠠᠭᠠᠯᠠᠨ ᠬᠥᠭᠵᠢᠭᠦᠯᠬᠦ ᠶᠢᠨ ᠲᠥᠯᠦᠭᠡ ᠶᠡᠬᠡ ᠠᠵᠢᠯ ᠢ ᠶᠠᠪᠤᠭᠤᠯᠵᠤ ᠪᠠᠶᠢᠨ᠎ᠠ ᠃ ᠡᠨᠡ ᠨᠢ ᠦᠨᠳᠦᠰᠦᠲᠡᠨ ᠦ ᠰᠤᠷᠭᠠᠯ ᠬᠦᠮᠦᠵᠢᠯ ᠢ ᠳᠡᠭᠡᠭᠰᠢᠯᠡᠭᠦᠯᠬᠦ ᠳᠦ ᠴᠢᠬᠤᠯᠠ ᠠᠴᠠ ᠤᠯᠤᠰ ᠲᠥᠷᠦ ᠶᠢᠨ ᠪᠣᠳᠯᠣᠭ᠎ᠠ ᠶᠢ ᠬᠡᠷᠡᠭᠵᠢᠭᠦᠯᠬᠦ ᠃ ᠮᠣᠩᠭᠣᠯ ᠦᠨᠳᠦᠰᠦᠲᠡᠨ ᠦ ᠦᠯᠡᠮᠵᠢ ᠰᠣᠶᠣᠯ ᠢ ᠬᠠᠮᠠᠭᠠᠯᠠᠨ ᠬᠥᠭᠵᠢᠭᠦᠯᠬᠦ ᠶᠢᠨ ᠲᠥᠯᠦᠭᠡ ᠶᠡᠬᠡ ᠠᠵᠢᠯ ᠢ ᠶᠠᠪᠤᠭᠤᠯᠵᠤ ᠪᠠᠶᠢᠨ᠎ᠠ ᠃ ᠡᠨᠡ ᠨᠢ ᠦᠨᠳᠦᠰᠦᠲᠡᠨ ᠦ ᠰᠤᠷᠭᠠᠯ ᠬᠦᠮᠦᠵᠢᠯ ᠢ ᠳᠡᠭᠡᠭᠰᠢᠯᠡᠭᠦᠯᠬᠦ ᠳᠦ ᠴᠢᠬᠤᠯᠠ ᠠᠴᠠ ᠤᠯᠤᠰ ᠲᠥᠷᠦ ᠶᠢᠨ ᠪᠣᠳᠯᠣᠭ᠎ᠠ ᠶᠢ ᠬᠡᠷᠡᠭᠵᠢᠭᠦᠯᠬᠦ ᠃ ᠮᠣᠩᠭᠣᠯ ᠦᠨᠳᠦᠰᠦᠲᠡᠨ ᠦ ᠦᠯᠡᠮᠵᠢ ᠰᠣᠶᠣᠯ ᠢ ᠬᠠᠮᠠᠭᠠᠯᠠᠨ ᠬᠥᠭᠵᠢᠭᠦᠯᠬᠦ ᠶᠢᠨ ᠲᠥᠯᠦᠭᠡ ᠶᠡᠬᠡ ᠠᠵᠢᠯ ᠢ ᠶᠠᠪᠤᠭᠤᠯᠵᠤ ᠪᠠᠶᠢᠨ᠎ᠠ ᠃ ᠡᠨᠡ ᠨᠢ ᠦᠨᠳᠦᠰᠦᠲᠡᠨ ᠦ ᠰᠤᠷᠭᠠᠯ ᠬᠦᠮᠦᠵᠢᠯ ᠢ ᠳᠡᠭᠡᠭᠰᠢᠯᠡᠭᠦᠯᠬᠦ ᠳᠦ ᠴᠢᠬᠤᠯᠠ ᠠᠴᠠ ᠤᠯᠤᠰ ᠲᠥᠷᠦ ᠶᠢᠨ ᠪᠣᠳᠯᠣᠭ᠎ᠠ ᠶᠢ ᠬᠡᠷᠡᠭᠵᠢᠭᠦᠯᠬᠦ ᠃ ᠮᠣᠩᠭᠣᠯ ᠦᠨᠳᠦᠰᠦᠲᠡᠨ ᠦ ᠦᠯᠡᠮᠵᠢ ᠰᠣᠶᠣᠯ ᠢ ᠬᠠᠮᠠᠭᠠᠯᠠᠨ ᠬᠥᠭᠵᠢᠭᠦᠯᠬᠦ ᠶᠢᠨ ᠲᠥᠯᠦᠭᠡ ᠶᠡᠬᠡ ᠠᠵᠢᠯ ᠢ ᠶᠠᠪᠤᠭᠤᠯᠵᠤ ᠪᠠᠶᠢᠨ᠎ᠠ ᠃ ᠡᠨᠡ ᠨᠢ ᠦᠨᠳᠦᠰᠦᠲᠡᠨ ᠦ ᠰᠤᠷᠭᠠᠯ ᠬᠦᠮᠦᠵᠢᠯ ᠢ ᠳᠡᠭᠡᠭᠰᠢᠯᠡᠭᠦᠯᠬᠦ ᠳᠦ ᠴᠢᠬᠤᠯᠠ ᠠᠴᠠ ᠤᠯᠤᠰ ᠲᠥᠷᠦ ᠶᠢᠨ ᠪᠣᠳᠯᠣᠭ᠎ᠠ ᠶᠢ ᠬᠡᠷᠡᠭᠵᠢᠭᠦᠯᠬᠦ ᠃ ᠮᠣᠩᠭᠣᠯ ᠦᠨᠳᠦᠰᠦᠲᠡᠨ ᠦ ᠦᠯᠡᠮᠵᠢ ᠰᠣᠶᠣᠯ ᠢ ᠬᠠᠮᠠᠭᠠᠯᠠᠨ ᠬᠥᠭᠵᠢᠭᠦᠯᠬᠦ ᠶᠢᠨ ᠲᠥᠯᠦᠭᠡ ᠶᠡᠬᠡ ᠠᠵᠢᠯ ᠢ ᠶᠠᠪᠤᠭᠤᠯᠵᠤ ᠪᠠᠶᠢᠨ᠎ᠠ ᠃ ᠡᠨᠡ ᠨᠢ ᠦᠨᠳᠦᠰᠦᠲᠡᠨ ᠦ ᠰᠤᠷᠭᠠᠯ ᠬᠦᠮᠦᠵᠢᠯ ᠢ ᠳᠡᠭᠡᠭᠰᠢᠯᠡᠭᠦᠯᠬᠦ ᠳᠦ ᠴᠢᠬᠤᠯᠠ ᠠᠴᠠ ᠤᠯᠤᠰ ᠲᠥᠷᠦ ᠶᠢᠨ ᠪᠣᠳᠯᠣᠭ᠎ᠠ ᠶᠢ ᠬᠡᠷᠡᠭᠵᠢᠭᠦᠯᠬᠦ ᠃ ᠮᠣᠩᠭᠣᠯ ᠦᠨᠳᠦᠰᠦᠲᠡᠨ ᠦ ᠦᠯᠡᠮᠵᠢ ᠰᠣᠶᠣᠯ ᠢ ᠬᠠᠮᠠᠭᠠᠯᠠᠨ ᠬᠥᠭᠵᠢᠭᠦᠯᠬᠦ ᠶᠢᠨ ᠲᠥᠯᠦᠭᠡ ᠶᠡᠬᠡ ᠠᠵᠢᠯ ᠢ ᠶᠠᠪᠤᠭᠤᠯᠵᠤ ᠪᠠᠶᠢᠨ᠎ᠠ ᠃ ᠡᠨᠡ ᠨᠢ ᠦᠨᠳᠦᠰᠦᠲᠡᠨ ᠦ ᠰᠤᠷᠭᠠᠯ ᠬᠦᠮᠦᠵᠢᠯ ᠢ ᠳᠡᠭᠡᠭᠰᠢᠯᠡᠭᠦᠯᠬᠦ ᠳᠦ ᠴᠢᠬᠤᠯᠠ ᠠᠴᠠ ᠤᠯᠤᠰ ᠲᠥᠷᠦ ᠶᠢᠨ ᠪᠣᠳᠯᠣᠭ᠎ᠠ ᠶᠢ ᠬᠡᠷᠡᠭᠵᠢᠭᠦᠯᠬᠦ ᠃ ᠮᠣᠩᠭᠣᠯ ᠦᠨᠳᠦᠰᠦᠲᠡᠨ ᠦ ᠦᠯᠡᠮᠵᠢ ᠰᠣᠶᠣᠯ ᠢ ᠬᠠᠮᠠᠭᠠᠯᠠᠨ ᠬᠥᠭᠵᠢᠭᠦᠯᠬᠦ ᠶᠢᠨ ᠲᠥᠯᠦᠭᠡ ᠶᠡᠬᠡ ᠠᠵᠢᠯ ᠢ ᠶᠠᠪᠤᠭᠤᠯᠵᠤ ᠪᠠᠶᠢᠨ᠎ᠠ ᠃ ᠡᠨᠡ ᠨᠢ ᠦᠨᠳᠦᠰᠦᠲᠡᠨ ᠦ ᠰᠤᠷᠭᠠᠯ ᠬᠦᠮᠦᠵᠢᠯ ᠢ ᠳᠡᠭᠡᠭᠰᠢᠯᠡᠭᠦᠯᠬᠦ ᠳᠦ ᠴᠢᠬᠤᠯᠠ ᠠᠴᠠ ᠤᠯᠤᠰ ᠲᠥᠷᠦ ᠶᠢᠨ ᠪᠣᠳᠯᠣᠭ᠎ᠠ ᠶᠢ ᠬᠡᠷᠡᠭᠵᠢᠭᠦᠯᠬᠦ ᠃ ᠮᠣᠩᠭᠣᠯ ᠦᠨᠳᠦᠰᠦᠲᠡᠨ ᠦ ᠦᠯᠡᠮᠵᠢ ᠰᠣᠶᠣᠯ ᠢ ᠬᠠᠮᠠᠭᠠᠯᠠᠨ ᠬᠥᠭᠵᠢᠭᠦᠯᠬᠦ ᠶᠢᠨ ᠲᠥᠯᠦᠭᠡ ᠶᠡᠬᠡ ᠠᠵᠢᠯ ᠢ ᠶᠠᠪᠤᠭᠤᠯᠵᠤ ᠪᠠᠶᠢᠨ᠎ᠠ ᠃ ᠡᠨᠡ ᠨᠢ ᠦᠨᠳᠦᠰᠦᠲᠡᠨ ᠦ ᠰᠤᠷᠭᠠᠯ ᠬᠦᠮᠦᠵᠢᠯ ᠢ ᠳᠡᠭᠡᠭᠰᠢᠯᠡᠭᠦᠯᠬᠦ ᠳᠦ ᠴᠢᠬᠤᠯᠠ ᠠᠴᠠ ᠤᠯᠤᠰ ᠲᠥᠷᠦ ᠶᠢᠨ ᠪᠣᠳᠯᠣᠭ᠎ᠠ ᠶᠢ ᠬᠡᠷᠡᠭᠵᠢᠭᠦᠯᠬᠦ ᠃ ᠮᠣᠩᠭᠣᠯ ᠦᠨᠳᠦᠰᠦᠲᠡᠨ ᠦ ᠦᠯᠡᠮᠵᠢ ᠰᠣᠶᠣᠯ ᠢ ᠬᠠᠮᠠᠭᠠᠯᠠᠨ ᠬᠥᠭᠵᠢᠭᠦᠯᠬᠦ ᠶᠢᠨ ᠲᠥᠯᠦᠭᠡ ᠶᠡᠬᠡ ᠠᠵᠢᠯ ᠢ ᠶᠠᠪᠤᠭᠤᠯᠵᠤ ᠪᠠᠶᠢᠨ᠎ᠠ ᠃ ᠡᠨᠡ ᠨᠢ ᠦᠨᠳᠦᠰᠦᠲᠡᠨ ᠦ ᠰᠤᠷᠭᠠᠯ ᠬᠦᠮᠦᠵᠢᠯ ᠢ ᠳᠡᠭᠡᠭᠰᠢᠯᠡᠭᠦᠯᠬᠦ ᠳᠦ ᠴᠢᠬᠤᠯᠠ ᠠᠴᠠ ᠤᠯᠤᠰ ᠲᠥᠷᠦ ᠶᠢᠨ ᠪᠣᠳᠯᠣᠭ᠎ᠠ ᠶᠢ ᠬᠡᠷᠡᠭᠵᠢᠭᠦᠯᠬᠦ ᠃ ᠮᠣᠩᠭᠣᠯ ᠦᠨᠳᠦᠰᠦᠲᠡᠨ ᠦ ᠦᠯᠡᠮᠵᠢ ᠰᠣᠶᠣᠯ ᠢ ᠬᠠᠮᠠᠭᠠᠯᠠᠨ ᠬᠥᠭᠵᠢᠭᠦᠯᠬᠦ ᠶᠢᠨ ᠲᠥᠯᠦᠭᠡ ᠶᠡᠬᠡ ᠠᠵᠢᠯ ᠢ ᠶᠠᠪᠤᠭᠤᠯᠵᠤ ᠪᠠᠶᠢᠨ᠎ᠠ ᠃ ᠡᠨᠡ ᠨᠢ ᠦᠨᠳᠦᠰᠦᠲᠡᠨ ᠦ ᠰᠤᠷᠭᠠᠯ ᠬᠦᠮᠦᠵᠢᠯ ᠢ ᠳᠡᠭᠡᠭᠰᠢᠯᠡᠭᠦᠯᠬᠦ ᠳᠦ ᠴᠢᠬᠤᠯᠠ ᠠᠴᠠ ᠤᠯᠤᠰ ᠲᠥᠷᠦ ᠶᠢᠨ ᠪᠣᠳᠯᠣᠭ᠎ᠠ ᠶᠢ ᠬᠡᠷᠡᠭᠵᠢᠭᠦᠯᠬᠦ ᠃ ᠮᠣᠩᠭᠣᠯ ᠦᠨᠳᠦᠰᠦᠲᠡᠨ ᠦ ᠦᠯᠡᠮᠵᠢ ᠰᠣᠶᠣᠯ ᠢ ᠬᠠᠮᠠᠭᠠᠯᠠᠨ ᠬᠥᠭᠵᠢᠭᠦᠯᠬᠦ ᠶᠢᠨ ᠲᠥᠯᠦᠭᠡ ᠶᠡᠬᠡ ᠠᠵᠢᠯ ᠢ ᠶᠠᠪᠤᠭᠤᠯᠵᠤ ᠪᠠᠶᠢᠨ᠎ᠠ ᠃ ᠡᠨᠡ ᠨᠢ ᠦᠨᠳᠦᠰᠦᠲᠡᠨ ᠦ ᠰᠤᠷᠭᠠᠯ ᠬᠦᠮᠦᠵᠢᠯ ᠢ ᠳᠡᠭᠡᠭᠰᠢᠯᠡᠭᠦᠯᠬᠦ ᠳᠦ ᠴᠢᠬᠤᠯᠠ ᠠᠴᠠ ᠤᠯᠤᠰ ᠲᠥᠷᠦ ᠶᠢᠨ ᠪᠣᠳᠯᠣᠭ᠎ᠠ ᠶᠢ ᠬᠡᠷᠡᠭᠵᠢᠭᠦᠯᠬᠦ ᠃ ᠮᠣᠩᠭᠣᠯ ᠦᠨᠳᠦᠰᠦᠲᠡᠨ ᠦ ᠦᠯᠡᠮᠵᠢ ᠰᠣᠶᠣᠯ ᠢ ᠬᠠᠮᠠᠭᠠᠯᠠᠨ ᠬᠥᠭᠵᠢᠭᠦᠯᠬᠦ ᠶᠢᠨ ᠲᠥᠯᠦᠭᠡ ᠶᠡᠬᠡ ᠠᠵᠢᠯ ᠢ ᠶᠠᠪᠤᠭᠤᠯᠵᠤ ᠪᠠᠶᠢᠨ᠎ᠠ ᠃ ᠡᠨᠡ ᠨᠢ ᠦᠨᠳᠦᠰᠦᠲᠡᠨ ᠦ ᠰᠤᠷᠭᠠᠯ ᠬᠦᠮᠦᠵᠢᠯ ᠢ ᠳᠡᠭᠡᠭᠰᠢᠯᠡᠭᠦᠯᠬᠦ ᠳᠦ ᠴᠢᠬᠤᠯᠠ ᠠᠴᠠ ᠤᠯᠤᠰ ᠲᠥᠷᠦ ᠶᠢᠨ ᠪᠣᠳᠯᠣᠭ᠎ᠠ ᠶᠢ ᠬᠡᠷᠡᠭᠵᠢᠭᠦᠯᠬᠦ ᠃ ᠮᠣᠩᠭᠣᠯ ᠦᠨᠳᠦᠰᠦᠲᠡᠨ ᠦ ᠦᠯᠡᠮᠵᠢ ᠰᠣᠶᠣᠯ ᠢ ᠬᠠᠮᠠᠭᠠᠯᠠᠨ ᠬᠥᠭᠵᠢᠭᠦᠯᠬᠦ ᠶᠢᠨ ᠲᠥᠯᠦᠭᠡ ᠶᠡᠬᠡ ᠠᠵᠢᠯ ᠢ ᠶᠠᠪᠤᠭᠤᠯᠵᠤ ᠪᠠᠶᠢᠨ᠎ᠠ ᠃ ᠡᠨᠡ ᠨᠢ ᠦᠨᠳᠦᠰᠦᠲᠡᠨ ᠦ ᠰᠤᠷᠭᠠᠯ ᠬᠦᠮᠦᠵᠢᠯ ᠢ ᠳᠡᠭᠡᠭᠰᠢᠯᠡᠭᠦᠯᠬᠦ ᠳᠦ ᠴᠢᠬᠤᠯᠠ ᠠᠴᠠ ᠤᠯᠤᠰ ᠲᠥᠷᠦ ᠶᠢᠨ ᠪᠣᠳᠯᠣᠭ᠎ᠠ ᠶᠢ ᠬᠡᠷᠡᠭᠵᠢᠭᠦᠯᠬᠦ ᠃ ᠮᠣᠩᠭᠣᠯ ᠦᠨᠳᠦᠰᠦᠲᠡᠨ ᠦ ᠦᠯᠡᠮᠵᠢ ᠰᠣᠶᠣᠯ ᠢ ᠬᠠᠮᠠᠭᠠᠯᠠᠨ ᠬᠥᠭᠵᠢᠭᠦᠯᠬᠦ ᠶᠢᠨ ᠲᠥᠯᠦᠭᠡ ᠶᠡᠬᠡ ᠠᠵᠢᠯ ᠢ ᠶᠠᠪᠤᠭᠤᠯᠵᠤ ᠪᠠᠶᠢᠨ᠎ᠠ ᠃ ᠡᠨᠡ ᠨᠢ ᠦᠨᠳᠦᠰᠦᠲᠡᠨ ᠦ ᠰᠤᠷᠭᠠᠯ ᠬᠦᠮᠦᠵᠢᠯ ᠢ ᠳᠡᠭᠡᠭᠰᠢᠯᠡᠭᠦᠯᠬᠦ ᠳᠦ ᠴᠢᠬᠤᠯᠠ ᠠᠴᠠ ᠤᠯᠤᠰ ᠲᠥᠷᠦ ᠶᠢᠨ ᠪᠣᠳᠯᠣᠭ᠎ᠠ ᠶᠢ ᠬᠡᠷᠡᠭᠵᠢᠭᠦᠯᠬᠦ ᠃ ᠮᠣᠩᠭᠣᠯ ᠦᠨᠳᠦᠰᠦᠲᠡᠨ ᠦ ᠦᠯᠡᠮᠵᠢ ᠰᠣᠶᠣᠯ ᠢ ᠬᠠᠮᠠᠭᠠᠯᠠᠨ ᠬᠥᠭᠵᠢᠭᠦᠯᠬᠦ ᠶᠢᠨ ᠲᠥᠯᠦᠭᠡ ᠶᠡᠬᠡ ᠠᠵᠢᠯ ᠢ ᠶᠠᠪᠤᠭᠤᠯᠵᠤ ᠪᠠᠶᠢᠨ᠎ᠠ ᠃ ᠡᠨᠡ ᠨᠢ ᠦᠨᠳᠦᠰᠦᠲᠡᠨ ᠦ ᠰᠤᠷᠭᠠᠯ ᠬᠦᠮᠦᠵᠢᠯ ᠢ ᠳᠡᠭᠡᠭᠰᠢᠯᠡᠭᠦᠯᠬᠦ ᠳᠦ ᠴᠢᠬᠤᠯᠠ ᠠᠴᠠ ᠤᠯᠤᠰ ᠲᠥᠷᠦ ᠶᠢᠨ ᠪᠣᠳᠯᠣᠭ᠎ᠠ ᠶᠢ ᠬᠡᠷᠡᠭᠵᠢᠭᠦᠯᠬᠦ ᠃ ᠮᠣᠩᠭᠣᠯ ᠦᠨᠳᠦᠰᠦᠲᠡᠨ ᠦ ᠦᠯᠡᠮᠵᠢ ᠰᠣᠶᠣᠯ ᠢ ᠬᠠᠮᠠᠭᠠᠯᠠᠨ ᠬᠥᠭᠵᠢᠭᠦᠯᠬᠦ ᠶᠢᠨ ᠲᠥᠯᠦᠭᠡ ᠶᠡᠬᠡ ᠠᠵᠢᠯ ᠢ ᠶᠠᠪᠤᠭᠤᠯᠵᠤ ᠪᠠᠶᠢᠨ᠎ᠠ ᠃ ᠡᠨᠡ ᠨᠢ ᠦᠨᠳᠦᠰᠦᠲᠡᠨ ᠦ ᠰᠤᠷᠭᠠᠯ ᠬᠦᠮᠦᠵᠢᠯ ᠢ ᠳᠡᠭᠡᠭᠰᠢᠯᠡᠭᠦᠯᠬᠦ ᠳᠦ ᠴᠢᠬᠤᠯᠠ ᠠᠴᠠ ᠤᠯᠤᠰ ᠲᠥᠷᠦ ᠶᠢᠨ ᠪᠣᠳᠯᠣᠭ᠎ᠠ ᠶᠢ ᠬᠡᠷᠡᠭᠵᠢᠭᠦᠯᠬᠦ ᠃ ᠮᠣᠩᠭᠣᠯ ᠦᠨᠳᠦᠰᠦᠲᠡᠨ ᠦ ᠦᠯᠡᠮᠵᠢ ᠰᠣᠶᠣᠯ ᠢ ᠬᠠᠮᠠᠭᠠᠯᠠᠨ ᠬᠥᠭᠵᠢᠭᠦᠯᠬᠦ ᠶᠢᠨ ᠲᠥᠯᠦᠭᠡ ᠶᠡᠬᠡ ᠠᠵᠢᠯ ᠢ ᠶᠠᠪᠤᠭᠤᠯᠵᠤ ᠪᠠᠶᠢᠨ᠎ᠠ ᠃ ᠡᠨᠡ ᠨᠢ ᠦᠨᠳᠦᠰᠦᠲᠡᠨ ᠦ ᠰᠤᠷᠭᠠᠯ ᠬᠦᠮᠦᠵᠢᠯ ᠢ ᠳᠡᠭᠡᠭᠰᠢᠯᠡᠭᠦᠯᠬᠦ ᠳᠦ ᠴᠢᠬᠤᠯᠠ ᠠᠴᠠ ᠤᠯᠤᠰ ᠲᠥᠷᠦ ᠶᠢᠨ ᠪᠣᠳᠯᠣᠭ᠎ᠠ ᠶᠢ ᠬᠡᠷᠡᠭᠵᠢᠭᠦᠯᠬᠦ ᠃ ᠮᠣᠩᠭᠣᠯ ᠦᠨᠳᠦᠰᠦᠲᠡᠨ ᠦ ᠦᠯᠡᠮᠵᠢ ᠰᠣᠶᠣᠯ ᠢ ᠬᠠᠮᠠᠭᠠᠯᠠᠨ ᠬᠥᠭᠵᠢᠭᠦᠯᠬᠦ ᠶᠢᠨ ᠲᠥᠯᠦᠭᠡ ᠶᠡᠬᠡ ᠠᠵᠢᠯ ᠢ ᠶᠠᠪᠤᠭᠤᠯᠵᠤ ᠪᠠᠶᠢᠨ᠎ᠠ ᠃ ᠡᠨᠡ ᠨᠢ ᠦᠨᠳᠦᠰᠦᠲᠡᠨ ᠦ ᠰᠤᠷᠭᠠᠯ ᠬᠦᠮᠦᠵᠢᠯ ᠢ ᠳᠡᠭᠡᠭᠰᠢᠯᠡᠭᠦᠯᠬᠦ ᠳᠦ ᠴᠢᠬᠤᠯᠠ ᠠᠴᠠ ᠤᠯᠤᠰ ᠲᠥᠷᠦ ᠶᠢᠨ ᠪᠣᠳᠯᠣᠭ᠎ᠠ ᠶᠢ ᠬᠡᠷᠡᠭᠵᠢᠭᠦᠯᠬᠦ ᠃ ᠮᠣᠩᠭᠣᠯ ᠦᠨᠳᠦᠰᠦᠲᠡᠨ ᠦ ᠦᠯᠡᠮᠵᠢ ᠰᠣᠶᠣᠯ ᠢ ᠬᠠᠮᠠᠭᠠᠯᠠᠨ ᠬᠥᠭᠵᠢᠭᠦᠯᠬᠦ ᠶᠢᠨ ᠲᠥᠯᠦᠭᠡ ᠶᠡᠬᠡ ᠠᠵᠢᠯ ᠢ ᠶᠠᠪᠤᠭᠤᠯᠵᠤ ᠪᠠᠶᠢᠨ᠎ᠠ ᠃ ᠡᠨᠡ ᠨᠢ ᠦᠨᠳᠦᠰᠦᠲᠡᠨ ᠦ ᠰᠤᠷᠭᠠᠯ ᠬᠦᠮᠦᠵᠢᠯ ᠢ ᠳᠡᠭᠡᠭᠰᠢᠯᠡᠭᠦᠯᠬᠦ ᠳᠦ ᠴᠢᠬᠤᠯᠠ ᠠᠴᠠ ᠤᠯᠤᠰ ᠲᠥᠷᠦ ᠶᠢᠨ ᠪᠣᠳᠯᠣᠭ᠎ᠠ ᠶᠢ ᠬᠡᠷᠡᠭᠵᠢᠭᠦᠯᠬᠦ ᠃ ᠮᠣᠩᠭᠣᠯ ᠦᠨᠳᠦᠰᠦᠲᠡᠨ ᠦ ᠦᠯᠡᠮᠵᠢ ᠰᠣᠶᠣᠯ ᠢ ᠬᠠᠮᠠᠭᠠᠯᠠᠨ ᠬᠥᠭᠵᠢᠭᠦᠯᠬᠦ ᠶᠢᠨ ᠲᠥᠯᠦᠭᠡ ᠶᠡᠬᠡ ᠠᠵᠢᠯ ᠢ ᠶᠠᠪᠤᠭᠤᠯᠵᠤ ᠪᠠᠶᠢᠨ᠎ᠠ ᠃ ᠡᠨᠡ ᠨᠢ ᠦᠨᠳᠦᠰᠦᠲᠡᠨ ᠦ ᠰᠤᠷᠭᠠᠯ ᠬᠦᠮᠦᠵᠢᠯ ᠢ ᠳᠡᠭᠡᠭᠰᠢᠯᠡᠭᠦᠯᠬᠦ ᠳᠦ ᠴᠢᠬᠤᠯᠠ ᠠᠴᠠ ᠤᠯᠤᠰ ᠲᠥᠷᠦ ᠶᠢᠨ ᠪᠣᠳᠯᠣᠭ᠎ᠠ ᠶᠢ ᠬᠡᠷᠡᠭᠵᠢᠭᠦᠯᠬᠦ ᠃ ᠮᠣᠩᠭᠣᠯ ᠦᠨᠳᠦᠰᠦᠲᠡᠨ ᠦ ᠦᠯᠡᠮᠵᠢ ᠰᠣᠶᠣᠯ ᠢ ᠬᠠᠮᠠᠭᠠᠯᠠᠨ ᠬᠥᠭᠵᠢᠭᠦᠯᠬᠦ ᠶᠢᠨ ᠲᠥᠯᠦᠭᠡ ᠶᠡᠬᠡ ᠠᠵᠢᠯ ᠢ ᠶᠠᠪᠤᠭᠤᠯᠵᠤ ᠪᠠᠶᠢᠨ᠎ᠠ ᠃ ᠡᠨᠡ ᠨᠢ ᠦᠨᠳᠦᠰᠦᠲᠡᠨ ᠦ ᠰᠤᠷᠭᠠᠯ ᠬᠦᠮᠦᠵᠢᠯ ᠢ ᠳᠡᠭᠡᠭᠰᠢᠯᠡᠭᠦᠯᠬᠦ ᠳᠦ ᠴᠢᠬᠤᠯᠠ ᠠᠴᠠ ᠤᠯᠤᠰ ᠲᠥᠷᠦ ᠶᠢᠨ ᠪᠣᠳᠯᠣᠭ᠎ᠠ ᠶᠢ ᠬᠡᠷᠡᠭᠵᠢᠭᠦᠯᠬᠦ ᠃ ᠮᠣᠩᠭᠣᠯ ᠦᠨᠳᠦᠰᠦᠲᠡᠨ ᠦ ᠦᠯᠡᠮᠵᠢ ᠰᠣᠶᠣᠯ ᠢ ᠬᠠᠮᠠᠭᠠᠯᠠᠨ ᠬᠥᠭᠵᠢᠭᠦᠯᠬᠦ ᠶᠢᠨ ᠲᠥᠯᠦᠭᠡ ᠶᠡᠬᠡ ᠠᠵᠢᠯ ᠢ ᠶᠠᠪᠤᠭᠤᠯᠵᠤ ᠪᠠᠶᠢᠨ᠎ᠠ ᠃ ᠡᠨᠡ ᠨᠢ ᠦᠨᠳᠦᠰᠦᠲᠡᠨ ᠦ ᠰᠤᠷᠭᠠᠯ ᠬᠦᠮᠦᠵᠢᠯ ᠢ ᠳᠡᠭᠡᠭᠰᠢᠯᠡᠭᠦᠯᠬᠦ ᠳᠦ ᠴᠢᠬᠤᠯᠠ ᠠᠴᠠ ᠤᠯᠤᠰ ᠲᠥᠷᠦ ᠶᠢᠨ ᠪᠣᠳᠯᠣᠭ᠎ᠠ ᠶᠢ ᠬᠡᠷᠡᠭᠵᠢᠭᠦᠯᠬᠦ ᠃ ᠮᠣᠩᠭᠣᠯ ᠦᠨᠳᠦᠰᠦᠲᠡᠨ ᠦ ᠦᠯᠡᠮᠵᠢ ᠰᠣᠶᠣᠯ ᠢ ᠬᠠᠮᠠᠭᠠᠯᠠᠨ ᠬᠥᠭᠵᠢᠭᠦᠯᠬᠦ ᠶᠢᠨ ᠲᠥᠯᠦᠭᠡ ᠶᠡᠬᠡ ᠠᠵᠢᠯ ᠢ ᠶᠠᠪᠤᠭᠤᠯᠵᠤ ᠪᠠᠶᠢᠨ᠎ᠠ ᠃ ᠡᠨᠡ ᠨᠢ ᠦᠨᠳᠦᠰᠦᠲᠡᠨ ᠦ ᠰᠤᠷᠭᠠᠯ ᠬᠦᠮᠦᠵᠢᠯ ᠢ ᠳᠡᠭᠡᠭᠰᠢᠯᠡᠭᠦᠯᠬᠦ ᠳᠦ ᠴᠢᠬᠤᠯᠠ ᠠᠴᠠ ᠤᠯᠤᠰ ᠲᠥᠷᠦ ᠶᠢᠨ ᠪᠣᠳᠯᠣᠭ᠎ᠠ ᠶᠢ ᠬᠡᠷᠡᠭᠵᠢᠭᠦᠯᠬᠦ ᠃ ᠮᠣᠩᠭᠣᠯ ᠦᠨᠳᠦᠰᠦᠲᠡᠨ ᠦ ᠦᠯᠡᠮᠵᠢ ᠰᠣᠶᠣᠯ ᠢ ᠬᠠᠮᠠᠭᠠᠯᠠᠨ ᠬᠥᠭᠵᠢᠭᠦᠯᠬᠦ ᠶᠢᠨ ᠲᠥᠯᠦᠭᠡ ᠶᠡᠬᠡ ᠠᠵᠢᠯ ᠢ ᠶᠠᠪᠤᠭᠤᠯᠵᠤ ᠪᠠᠶᠢᠨ᠎ᠠ ᠃ ᠡᠨᠡ ᠨᠢ ᠦᠨᠳᠦᠰᠦᠲᠡᠨ ᠦ ᠰᠤᠷᠭᠠᠯ ᠬᠦᠮᠦᠵᠢᠯ ᠢ ᠳᠡᠭᠡᠭᠰᠢᠯᠡᠭᠦᠯᠬᠦ ᠳᠦ ᠴᠢᠬᠤᠯᠠ ᠠᠴᠠ ᠤᠯᠤᠰ ᠲᠥᠷᠦ ᠶᠢᠨ ᠪᠣᠳᠯᠣᠭ᠎ᠠ ᠶᠢ ᠬᠡᠷᠡᠭᠵᠢᠭᠦᠯᠬᠦ ᠃ ᠮᠣᠩᠭᠣᠯ ᠦᠨᠳᠦᠰᠦᠲᠡᠨ ᠦ ᠦᠯᠡᠮᠵᠢ ᠰᠣᠶᠣᠯ ᠢ ᠬᠠᠮᠠᠭᠠᠯᠠᠨ ᠬᠥᠭᠵᠢᠭᠦᠯᠬᠦ ᠶᠢᠨ ᠲᠥᠯᠦᠭᠡ ᠶᠡᠬᠡ ᠠᠵᠢᠯ ᠢ ᠶᠠᠪᠤᠭᠤᠯᠵᠤ ᠪᠠᠶᠢᠨ᠎ᠠ ᠃ ᠡᠨᠡ ᠨᠢ ᠦᠨᠳᠦᠰᠦᠲᠡᠨ ᠦ ᠰᠤᠷᠭᠠᠯ ᠬᠦᠮᠦᠵᠢᠯ ᠢ ᠳᠡᠭᠡᠭᠰᠢᠯᠡᠭᠦᠯᠬᠦ ᠳᠦ ᠴᠢᠬᠤᠯᠠ ᠠᠴᠠ ᠤᠯᠤᠰ ᠲᠥᠷᠦ ᠶᠢᠨ ᠪᠣᠳᠯᠣᠭ᠎ᠠ ᠶᠢ ᠬᠡᠷᠡᠭᠵᠢᠭᠦᠯᠬᠦ ᠃ ᠮᠣᠩᠭᠣᠯ ᠦᠨᠳᠦᠰᠦᠲᠡᠨ ᠦ ᠦᠯᠡᠮᠵᠢ ᠰᠣᠶᠣᠯ ᠢ ᠬᠠᠮᠠᠭᠠᠯᠠᠨ ᠬᠥᠭᠵᠢᠭᠦᠯᠬᠦ ᠶᠢᠨ ᠲᠥᠯᠦᠭᠡ ᠶᠡᠬᠡ ᠠᠵᠢᠯ ᠢ ᠶᠠᠪᠤᠭᠤᠯᠵᠤ ᠪᠠᠶᠢᠨ᠎ᠠ ᠃ ᠡᠨᠡ ᠨᠢ ᠦᠨᠳᠦᠰᠦᠲᠡᠨ ᠦ ᠰᠤᠷᠭᠠᠯ ᠬᠦᠮᠦᠵᠢᠯ ᠢ ᠳᠡᠭᠡᠭᠰᠢᠯᠡᠭᠦᠯᠬᠦ ᠳᠦ ᠴᠢᠬᠤᠯᠠ ᠠᠴᠠ ᠤᠯᠤᠰ ᠲᠥᠷᠦ ᠶᠢᠨ ᠪᠣᠳᠯᠣᠭ᠎ᠠ ᠶᠢ ᠬᠡᠷᠡᠭᠵᠢᠭᠦᠯᠬᠦ ᠃ ᠮᠣᠩᠭᠣᠯ ᠦᠨᠳᠦᠰᠦᠲᠡᠨ ᠦ ᠦᠯᠡᠮᠵᠢ ᠰᠣᠶᠣᠯ ᠢ ᠬᠠᠮᠠᠭᠠᠯᠠᠨ ᠬᠥᠭᠵᠢᠭᠦᠯᠬᠦ ᠶᠢᠨ ᠲᠥᠯᠦᠭᠡ ᠶᠡᠬᠡ ᠠᠵᠢᠯ ᠢ ᠶᠠᠪᠤᠭᠤᠯᠵᠤ ᠪᠠᠶᠢᠨ᠎ᠠ ᠃ ᠡᠨᠡ ᠨᠢ ᠦᠨᠳᠦᠰᠦᠲᠡᠨ ᠦ ᠰᠤᠷᠭᠠᠯ ᠬᠦᠮᠦᠵᠢᠯ ᠢ ᠳᠡᠭᠡᠭᠰᠢᠯᠡᠭᠦᠯᠬᠦ ᠳᠦ ᠴᠢᠬᠤᠯᠠ ᠠᠴᠠ ᠤᠯᠤᠰ ᠲᠥᠷᠦ ᠶᠢᠨ ᠪᠣᠳᠯᠣᠭ᠎ᠠ ᠶᠢ ᠬᠡᠷᠡᠭᠵᠢᠭᠦᠯᠬᠦ ᠃ ᠮᠣᠩᠭᠣᠯ ᠦᠨᠳᠦᠰᠦᠲᠡᠨ ᠦ ᠦᠯᠡᠮᠵᠢ ᠰᠣᠶᠣᠯ ᠢ ᠬᠠᠮᠠᠭᠠᠯᠠᠨ ᠬᠥᠭᠵᠢᠭᠦᠯᠬᠦ ᠶᠢᠨ ᠲᠥᠯᠦᠭᠡ ᠶᠡᠬᠡ ᠠᠵᠢᠯ ᠢ ᠶᠠᠪᠤᠭᠤᠯᠵᠤ ᠪᠠᠶᠢᠨ᠎ᠠ ᠃ ᠡᠨᠡ ᠨᠢ ᠦᠨᠳᠦᠰᠦᠲᠡᠨ ᠦ ᠰᠤᠷᠭᠠᠯ ᠬᠦᠮᠦᠵᠢᠯ ᠢ ᠳᠡᠭᠡᠭᠰᠢᠯᠡᠭᠦᠯᠬᠦ ᠳᠦ ᠴᠢᠬᠤᠯᠠ ᠠᠴᠠ ᠤᠯᠤᠰ ᠲᠥᠷᠦ ᠶᠢᠨ ᠪᠣᠳᠯᠣᠭ᠎ᠠ ᠶᠢ ᠬᠡᠷᠡᠭᠵᠢᠭᠦᠯᠬᠦ ᠃ ᠮᠣᠩᠭᠣᠯ ᠦᠨᠳᠦᠰᠦᠲᠡᠨ ᠦ ᠦᠯᠡᠮᠵᠢ ᠰᠣᠶᠣᠯ ᠢ ᠬᠠᠮᠠᠭᠠᠯᠠᠨ ᠬᠥᠭᠵᠢᠭᠦᠯᠬᠦ ᠶᠢᠨ ᠲᠥᠯᠦᠭᠡ ᠶᠡᠬᠡ ᠠᠵᠢᠯ ᠢ ᠶᠠᠪᠤᠭᠤᠯᠵᠤ ᠪᠠᠶᠢᠨ᠎ᠠ ᠃ ᠡᠨᠡ ᠨᠢ ᠦᠨᠳᠦᠰᠦᠲᠡᠨ ᠦ ᠰᠤᠷᠭᠠᠯ ᠬᠦᠮᠦᠵᠢᠯ ᠢ ᠳᠡᠭᠡᠭᠰᠢᠯᠡᠭᠦᠯᠬᠦ ᠳᠦ ᠴᠢᠬᠤᠯᠠ ᠠᠴᠠ ᠤᠯᠤᠰ ᠲᠥᠷᠦ ᠶᠢᠨ ᠪᠣᠳᠯᠣᠭ᠎ᠠ ᠶᠢ ᠬᠡᠷᠡᠭᠵᠢᠭᠦᠯᠬᠦ ᠃ ᠮᠣᠩᠭᠣᠯ ᠦᠨᠳᠦᠰᠦᠲᠡᠨ ᠦ ᠦᠯᠡᠮᠵᠢ ᠰᠣᠶᠣᠯ ᠢ ᠬᠠᠮᠠᠭᠠᠯᠠᠨ ᠬᠥᠭᠵᠢᠭᠦᠯᠬᠦ ᠶᠢᠨ ᠲᠥᠯᠦᠭᠡ ᠶᠡᠬᠡ ᠠᠵᠢᠯ ᠢ ᠶᠠᠪᠤᠭᠤᠯᠵᠤ ᠪᠠᠶᠢᠨ᠎ᠠ ᠃ ᠡᠨᠡ ᠨᠢ ᠦᠨᠳᠦᠰᠦᠲᠡᠨ ᠦ ᠰᠤᠷᠭᠠᠯ ᠬᠦᠮᠦᠵᠢᠯ ᠢ ᠳᠡᠭᠡᠭᠰᠢᠯᠡᠭᠦᠯᠬᠦ ᠳᠦ ᠴᠢᠬᠤᠯᠠ ᠠᠴᠠ ᠤᠯᠤᠰ ᠲᠥᠷᠦ ᠶᠢᠨ ᠪᠣᠳᠯᠣᠭ᠎ᠠ ᠶᠢ ᠬᠡᠷᠡᠭᠵᠢᠭᠦᠯᠬᠦ ᠃ ᠮᠣᠩᠭᠣᠯ ᠦᠨᠳᠦᠰᠦᠲᠡᠨ ᠦ ᠦᠯᠡᠮᠵᠢ ᠰᠣᠶᠣᠯ ᠢ ᠬᠠᠮᠠᠭᠠᠯᠠᠨ ᠬᠥᠭᠵᠢᠭᠦᠯᠬᠦ ᠶᠢᠨ ᠲᠥᠯᠦᠭᠡ ᠶᠡᠬᠡ ᠠᠵᠢᠯ ᠢ ᠶᠠᠪᠤᠭᠤᠯᠵᠤ ᠪᠠᠶᠢᠨ᠎ᠠ ᠃ ᠡᠨᠡ ᠨᠢ ᠦᠨᠳᠦᠰᠦᠲᠡᠨ ᠦ ᠰᠤᠷᠭᠠᠯ ᠬᠦᠮᠦᠵᠢᠯ ᠢ ᠳᠡᠭᠡᠭᠰᠢᠯᠡᠭᠦᠯᠬᠦ ᠳᠦ ᠴᠢᠬᠤᠯᠠ ᠠᠴᠠ ᠤᠯᠤᠰ ᠲᠥᠷᠦ ᠶᠢᠨ ᠪᠣᠳᠯᠣᠭ᠎ᠠ ᠶᠢ ᠬᠡᠷᠡᠭᠵᠢᠭᠦᠯᠬᠦ ᠃ ᠮᠣᠩᠭᠣᠯ ᠦᠨᠳᠦᠰᠦᠲᠡᠨ ᠦ ᠦᠯᠡᠮᠵᠢ ᠰᠣᠶᠣᠯ ᠢ ᠬᠠᠮᠠᠭᠠᠯᠠᠨ ᠬᠥᠭᠵᠢᠭᠦᠯᠬᠦ ᠶᠢᠨ ᠲᠥᠯᠦᠭᠡ ᠶᠡᠬᠡ ᠠᠵᠢᠯ ᠢ ᠶᠠᠪᠤᠭᠤᠯᠵᠤ ᠪᠠᠶᠢᠨ᠎ᠠ ᠃ ᠡᠨᠡ ᠨᠢ ᠦᠨᠳᠦᠰᠦᠲᠡᠨ ᠦ ᠰᠤᠷᠭᠠᠯ ᠬᠦᠮᠦᠵᠢᠯ ᠢ ᠳᠡᠭᠡᠭᠰᠢᠯᠡᠭᠦᠯᠬᠦ ᠳᠦ ᠴᠢᠬᠤᠯᠠ ᠠᠴᠠ ᠤᠯᠤᠰ ᠲᠥᠷᠦ ᠶᠢᠨ ᠪᠣᠳᠯᠣᠭ᠎ᠠ ᠶᠢ ᠬᠡᠷᠡᠭᠵᠢᠭᠦᠯᠬᠦ ᠃ ᠮᠣᠩᠭᠣᠯ ᠦᠨᠳᠦᠰᠦᠲᠡᠨ ᠦ ᠦᠯᠡᠮᠵᠢ ᠰᠣᠶᠣᠯ ᠢ ᠬᠠᠮᠠᠭᠠᠯᠠᠨ ᠬᠥᠭᠵᠢᠭᠦᠯᠬᠦ ᠶᠢᠨ ᠲᠥᠯᠦᠭᠡ ᠶᠡᠬᠡ ᠠᠵᠢᠯ ᠢ ᠶᠠᠪᠤᠭᠤᠯᠵᠤ ᠪᠠᠶᠢᠨ᠎ᠠ ᠃ ᠡᠨᠡ ᠨᠢ ᠦᠨᠳᠦᠰᠦᠲᠡᠨ ᠦ ᠰᠤᠷᠭᠠᠯ ᠬᠦᠮᠦᠵᠢᠯ ᠢ ᠳᠡᠭᠡᠭᠰᠢᠯᠡᠭᠦᠯᠬᠦ ᠳᠦ ᠴᠢᠬᠤᠯᠠ ᠠᠴᠠ ᠤᠯᠤᠰ ᠲᠥᠷᠦ ᠶᠢᠨ ᠪᠣᠳᠯᠣᠭ᠎ᠠ ᠶᠢ ᠬᠡᠷᠡᠭᠵᠢᠭᠦᠯᠬᠦ ᠃ ᠮᠣᠩᠭᠣᠯ ᠦᠨᠳᠦᠰᠦᠲᠡᠨ ᠦ ᠦᠯᠡᠮᠵᠢ ᠰᠣᠶᠣᠯ ᠢ ᠬᠠᠮᠠᠭᠠᠯᠠᠨ ᠬᠥᠭᠵᠢᠭᠦᠯᠬᠦ ᠶᠢᠨ ᠲᠥᠯᠦᠭᠡ ᠶᠡᠬᠡ ᠠᠵᠢᠯ ᠢ ᠶᠠᠪᠤᠭᠤᠯᠵᠤ ᠪᠠᠶᠢᠨ᠎ᠠ ᠃ ᠡᠨᠡ ᠨᠢ ᠦᠨᠳᠦᠰᠦᠲᠡᠨ ᠦ ᠰᠤᠷᠭᠠᠯ ᠬᠦᠮᠦᠵᠢᠯ ᠢ ᠳᠡᠭᠡᠭᠰᠢᠯᠡᠭᠦᠯᠬᠦ ᠳᠦ ᠴᠢᠬᠤᠯᠠ ᠠᠴᠠ ᠤᠯᠤᠰ ᠲᠥᠷᠦ ᠶᠢᠨ ᠪᠣᠳᠯᠣᠭ᠎ᠠ ᠶᠢ ᠬᠡᠷᠡᠭᠵᠢᠭᠦᠯᠬᠦ ᠃ ᠮᠣᠩᠭᠣᠯ ᠦᠨᠳᠦᠰᠦᠲᠡᠨ ᠦ ᠦᠯᠡᠮᠵᠢ ᠰᠣᠶᠣᠯ ᠢ ᠬᠠᠮᠠᠭᠠᠯᠠᠨ ᠬᠥᠭᠵᠢᠭᠦᠯᠬᠦ ᠶᠢᠨ ᠲᠥᠯᠦᠭᠡ ᠶᠡᠬᠡ ᠠᠵᠢᠯ ᠢ ᠶᠠᠪᠤᠭᠤᠯᠵᠤ ᠪᠠᠶᠢᠨ᠎ᠠ ᠃ ᠡᠨᠡ ᠨᠢ ᠦᠨᠳᠦᠰᠦᠲᠡᠨ ᠦ ᠰᠤᠷᠭᠠᠯ ᠬᠦᠮᠦᠵᠢᠯ ᠢ ᠳᠡᠭᠡᠭᠰᠢᠯᠡᠭᠦᠯᠬᠦ ᠳᠦ ᠴᠢᠬᠤᠯᠠ ᠠᠴᠠ ᠤᠯᠤᠰ ᠲᠥᠷᠦ ᠶᠢᠨ ᠪᠣᠳᠯᠣᠭ᠎ᠠ ᠶᠢ ᠬᠡᠷᠡᠭᠵᠢᠭᠦᠯᠬᠦ ᠃ ᠮᠣᠩᠭᠣᠯ ᠦᠨᠳᠦᠰᠦᠲᠡᠨ ᠦ ᠦᠯᠡᠮᠵᠢ ᠰᠣᠶᠣᠯ ᠢ ᠬᠠᠮᠠᠭᠠᠯᠠᠨ ᠬᠥᠭᠵᠢᠭᠦᠯᠬᠦ ᠶᠢᠨ ᠲᠥᠯᠦᠭᠡ ᠶᠡᠬᠡ ᠠᠵᠢᠯ ᠢ ᠶᠠᠪᠤᠭᠤᠯᠵᠤ ᠪᠠᠶᠢᠨ᠎ᠠ ᠃ ᠡᠨᠡ ᠨᠢ ᠦᠨᠳᠦᠰᠦᠲᠡᠨ ᠦ ᠰᠤᠷᠭᠠᠯ ᠬᠦᠮᠦᠵᠢᠯ ᠢ ᠳᠡᠭᠡᠭᠰᠢᠯᠡᠭᠦᠯᠬᠦ ᠳᠦ ᠴᠢᠬᠤᠯᠠ ᠠᠴᠠ ᠤᠯᠤᠰ ᠲᠥᠷᠦ ᠶᠢᠨ ᠪᠣᠳᠯᠣᠭ᠎ᠠ ᠶᠢ ᠬᠡᠷᠡᠭᠵᠢᠭᠦᠯᠬᠦ ᠃ ᠮᠣᠩᠭᠣᠯ ᠦᠨᠳᠦᠰᠦᠲᠡᠨ ᠦ ᠦᠯᠡᠮᠵᠢ ᠰᠣᠶᠣᠯ ᠢ ᠬᠠᠮᠠᠭᠠᠯᠠᠨ ᠬᠥᠭᠵᠢᠭᠦᠯᠬᠦ ᠶᠢᠨ ᠲᠥᠯᠦᠭᠡ ᠶᠡᠬᠡ ᠠᠵᠢᠯ ᠢ ᠶᠠᠪᠤᠭᠤᠯᠵᠤ ᠪᠠᠶᠢᠨ᠎ᠠ ᠃ ᠡᠨᠡ ᠨᠢ ᠦᠨᠳᠦᠰᠦᠲᠡᠨ ᠦ ᠰᠤᠷᠭᠠᠯ ᠬᠦᠮᠦᠵᠢᠯ ᠢ ᠳᠡᠭᠡᠭᠰᠢᠯᠡᠭᠦᠯᠬᠦ ᠳᠦ ᠴᠢᠬᠤᠯᠠ ᠠᠴᠠ ᠤᠯᠤᠰ ᠲᠥᠷᠦ ᠶᠢᠨ ᠪᠣᠳᠯᠣᠭ᠎ᠠ ᠶᠢ ᠬᠡᠷᠡᠭᠵᠢᠭᠦᠯᠬᠦ ᠃ ᠮᠣᠩᠭᠣᠯ ᠦᠨᠳᠦᠰᠦᠲᠡᠨ ᠦ ᠦᠯᠡᠮᠵᠢ ᠰᠣᠶᠣᠯ ᠢ ᠬᠠᠮᠠᠭᠠᠯᠠᠨ ᠬᠥᠭᠵᠢᠭᠦᠯᠬᠦ ᠶᠢᠨ ᠲᠥᠯᠦᠭᠡ ᠶᠡᠬᠡ ᠠᠵᠢᠯ ᠢ ᠶᠠᠪᠤᠭᠤᠯᠵᠤ ᠪᠠᠶᠢᠨ᠎ᠠ ᠃ ᠡᠨᠡ ᠨᠢ ᠦᠨᠳᠦᠰᠦᠲᠡᠨ ᠦ ᠰᠤᠷᠭᠠᠯ ᠬᠦᠮᠦᠵᠢᠯ ᠢ ᠳᠡᠭᠡᠭᠰᠢᠯᠡᠭᠦᠯᠬᠦ ᠳᠦ ᠴᠢᠬᠤᠯᠠ ᠠᠴᠠ ᠤᠯᠤᠰ ᠲᠥᠷᠦ ᠶᠢᠨ ᠪᠣᠳᠯᠣᠭ᠎ᠠ ᠶᠢ ᠬᠡᠷᠡᠭᠵᠢᠭᠦᠯᠬᠦ ᠃ ᠮᠣᠩᠭᠣᠯ ᠦᠨᠳᠦᠰᠦᠲᠡᠨ ᠦ ᠦᠯᠡᠮᠵᠢ ᠰᠣᠶᠣᠯ ᠢ ᠬᠠᠮᠠᠭᠠᠯᠠᠨ ᠬᠥᠭᠵᠢᠭᠦᠯᠬᠦ ᠶᠢᠨ ᠲᠥᠯᠦᠭᠡ ᠶᠡᠬᠡ ᠠᠵᠢᠯ ᠢ ᠶᠠᠪᠤᠭᠤᠯᠵᠤ ᠪᠠᠶᠢᠨ᠎ᠠ ᠃ ᠡᠨᠡ ᠨᠢ ᠦᠨᠳᠦᠰᠦᠲᠡᠨ ᠦ ᠰᠤᠷᠭᠠᠯ ᠬᠦᠮᠦᠵᠢᠯ ᠢ ᠳᠡᠭᠡᠭᠰᠢᠯᠡᠭᠦᠯᠬᠦ ᠳᠦ ᠴᠢᠬᠤᠯᠠ ᠠᠴᠠ ᠤᠯᠤᠰ ᠲᠥᠷᠦ ᠶᠢᠨ ᠪᠣᠳᠯᠣᠭ᠎ᠠ ᠶᠢ ᠬᠡᠷᠡᠭᠵᠢᠭᠦᠯᠬᠦ ᠃ ᠮᠣᠩᠭᠣᠯ ᠦᠨᠳᠦᠰᠦᠲᠡᠨ ᠦ ᠦᠯᠡᠮᠵᠢ ᠰᠣᠶᠣᠯ ᠢ ᠬᠠᠮᠠᠭᠠᠯᠠᠨ ᠬᠥᠭᠵᠢᠭᠦᠯᠬᠦ ᠶᠢᠨ ᠲᠥᠯᠦᠭᠡ ᠶᠡᠬᠡ ᠠᠵᠢᠯ ᠢ ᠶᠠᠪᠤᠭᠤᠯᠵᠤ ᠪᠠᠶᠢᠨ᠎ᠠ ᠃ ᠡᠨᠡ ᠨᠢ ᠦᠨᠳᠦᠰᠦᠲᠡᠨ ᠦ ᠰᠤᠷᠭᠠᠯ ᠬᠦᠮᠦᠵᠢᠯ ᠢ ᠳᠡᠭᠡᠭᠰᠢᠯᠡᠭᠦᠯᠬᠦ ᠳᠦ ᠴᠢᠬᠤᠯᠠ ᠠᠴᠠ ᠤᠯᠤᠰ ᠲᠥᠷᠦ ᠶᠢᠨ ᠪᠣᠳᠯᠣᠭ᠎ᠠ ᠶᠢ ᠬᠡᠷᠡᠭᠵᠢᠭᠦᠯᠬᠦ ᠃ ᠮᠣᠩᠭᠣᠯ ᠦᠨᠳᠦᠰᠦᠲᠡᠨ ᠦ ᠦᠯᠡᠮᠵᠢ ᠰᠣᠶᠣᠯ ᠢ ᠬᠠᠮᠠᠭᠠᠯᠠᠨ ᠬᠥᠭᠵᠢᠭᠦᠯᠬᠦ ᠶᠢᠨ ᠲᠥᠯᠦᠭᠡ ᠶᠡᠬᠡ ᠠᠵᠢᠯ ᠢ ᠶᠠᠪᠤᠭᠤᠯᠵᠤ ᠪᠠᠶᠢᠨ᠎ᠠ ᠃ ᠡᠨᠡ ᠨᠢ ᠦᠨᠳᠦᠰᠦᠲᠡᠨ ᠦ ᠰᠤᠷᠭᠠᠯ ᠬᠦᠮᠦᠵᠢᠯ ᠢ ᠳᠡᠭᠡᠭᠰᠢᠯᠡᠭᠦᠯᠬᠦ ᠳᠦ ᠴᠢᠬᠤᠯᠠ ᠠᠴᠠ ᠤᠯᠤᠰ ᠲᠥᠷᠦ ᠶᠢᠨ ᠪᠣᠳᠯᠣᠭ᠎ᠠ ᠶᠢ ᠬᠡᠷᠡᠭᠵᠢᠭᠦᠯᠬᠦ ᠃ ᠮᠣᠩᠭᠣᠯ ᠦᠨᠳᠦᠰᠦᠲᠡᠨ ᠦ ᠦᠯᠡᠮᠵᠢ ᠰᠣᠶᠣᠯ ᠢ ᠬᠠᠮᠠᠭᠠᠯᠠᠨ ᠬᠥᠭᠵᠢᠭᠦᠯᠬᠦ ᠶᠢᠨ ᠲᠥᠯᠦᠭᠡ ᠶᠡᠬᠡ ᠠᠵᠢᠯ ᠢ ᠶᠠᠪᠤᠭᠤᠯᠵᠤ ᠪᠠᠶᠢᠨ᠎ᠠ ᠃ ᠡᠨᠡ ᠨᠢ ᠦᠨᠳᠦᠰᠦᠲᠡᠨ ᠦ ᠰᠤᠷᠭᠠᠯ ᠬᠦᠮᠦᠵᠢᠯ ᠢ ᠳᠡᠭᠡᠭᠰᠢᠯᠡᠭᠦᠯᠬᠦ ᠳᠦ ᠴᠢᠬᠤᠯᠠ ᠠᠴᠠ ᠤᠯᠤᠰ ᠲᠥᠷᠦ ᠶᠢᠨ ᠪᠣᠳᠯᠣᠭ᠎ᠠ ᠶᠢ ᠬᠡᠷᠡᠭᠵᠢᠭᠦᠯᠬᠦ ᠃ ᠮᠣᠩᠭᠣᠯ ᠦᠨᠳᠦᠰᠦᠲᠡᠨ ᠦ ᠦᠯᠡᠮᠵᠢ ᠰᠣᠶᠣᠯ ᠢ ᠬᠠᠮᠠᠭᠠᠯᠠᠨ ᠬᠥᠭᠵᠢᠭᠦᠯᠬᠦ ᠶᠢᠨ ᠲᠥᠯᠦᠭᠡ ᠶᠡᠬᠡ ᠠᠵᠢᠯ ᠢ ᠶᠠᠪᠤᠭᠤᠯᠵᠤ ᠪᠠᠶᠢᠨ᠎ᠠ ᠃ ᠡᠨᠡ ᠨᠢ ᠦᠨᠳᠦᠰᠦᠲᠡᠨ ᠦ ᠰᠤᠷᠭᠠᠯ ᠬᠦᠮᠦᠵᠢᠯ ᠢ ᠳᠡᠭᠡᠭᠰᠢᠯᠡᠭᠦᠯᠬᠦ ᠳᠦ ᠴᠢᠬᠤᠯᠠ ᠠᠴᠠ ᠤᠯᠤᠰ ᠲᠥᠷᠦ ᠶᠢᠨ ᠪᠣᠳᠯᠣᠭ᠎ᠠ ᠶᠢ ᠬᠡᠷᠡᠭᠵᠢᠭᠦᠯᠬᠦ ᠃ ᠮᠣᠩᠭᠣᠯ ᠦᠨᠳᠦᠰᠦᠲᠡᠨ ᠦ ᠦᠯᠡᠮᠵᠢ ᠰᠣᠶᠣᠯ ᠢ ᠬᠠᠮᠠᠭᠠᠯᠠᠨ ᠬᠥᠭᠵᠢᠭᠦᠯᠬᠦ ᠶᠢᠨ ᠲᠥᠯᠦᠭᠡ ᠶᠡᠬᠡ ᠠᠵᠢᠯ ᠢ ᠶᠠᠪᠤᠭᠤᠯᠵᠤ ᠪᠠᠶᠢᠨ᠎ᠠ ᠃ ᠡᠨᠡ ᠨᠢ ᠦᠨᠳᠦᠰᠦᠲᠡᠨ ᠦ ᠰᠤᠷᠭᠠᠯ ᠬᠦᠮᠦᠵᠢᠯ ᠢ ᠳᠡᠭᠡᠭᠰᠢᠯᠡᠭᠦᠯᠬᠦ ᠳᠦ ᠴᠢᠬᠤᠯᠠ ᠠᠴᠠ ᠤᠯᠤᠰ ᠲᠥᠷᠦ ᠶᠢᠨ ᠪᠣᠳᠯᠣᠭ᠎ᠠ ᠶᠢ ᠬᠡᠷᠡᠭᠵᠢᠭᠦᠯᠬᠦ ᠃ ᠮᠣᠩᠭᠣᠯ ᠦᠨᠳᠦᠰᠦᠲᠡᠨ ᠦ ᠦᠯᠡᠮᠵᠢ ᠰᠣᠶᠣᠯ ᠢ ᠬᠠᠮᠠᠭᠠᠯᠠᠨ ᠬᠥᠭᠵᠢᠭᠦᠯᠬᠦ ᠶᠢᠨ ᠲᠥᠯᠦᠭᠡ ᠶᠡᠬᠡ ᠠᠵᠢᠯ ᠢ ᠶᠠᠪᠤᠭᠤᠯᠵᠤ ᠪᠠᠶᠢᠨ᠎ᠠ ᠃ ᠡᠨᠡ ᠨᠢ ᠦᠨᠳᠦᠰᠦᠲᠡᠨ ᠦ ᠰᠤᠷᠭᠠᠯ ᠬᠦᠮᠦᠵᠢᠯ ᠢ ᠳᠡᠭᠡᠭᠰᠢᠯᠡᠭᠦᠯᠬᠦ ᠳᠦ ᠴᠢᠬᠤᠯᠠ ᠠᠴᠠ ᠤᠯᠤᠰ ᠲᠥᠷᠦ ᠶᠢᠨ ᠪᠣᠳᠯᠣᠭ᠎ᠠ ᠶᠢ ᠬᠡᠷᠡᠭᠵᠢᠭᠦᠯᠬᠦ ᠃ ᠮᠣᠩᠭᠣᠯ ᠦᠨᠳᠦᠰᠦᠲᠡᠨ ᠦ ᠦᠯᠡᠮᠵᠢ ᠰᠣᠶᠣᠯ ᠢ ᠬᠠᠮᠠᠭᠠᠯᠠᠨ ᠬᠥᠭᠵᠢᠭᠦᠯᠬᠦ ᠶᠢᠨ ᠲᠥᠯᠦᠭᠡ ᠶᠡᠬᠡ ᠠᠵᠢᠯ ᠢ ᠶᠠᠪᠤᠭᠤᠯᠵᠤ ᠪᠠᠶᠢᠨ᠎ᠠ ᠃ ᠡᠨᠡ ᠨᠢ ᠦᠨᠳᠦᠰᠦᠲᠡᠨ ᠦ ᠰᠤᠷᠭᠠᠯ ᠬᠦᠮᠦᠵᠢᠯ ᠢ ᠳᠡᠭᠡᠭᠰᠢᠯᠡᠭᠦᠯᠬᠦ ᠳᠦ ᠴᠢᠬᠤᠯᠠ ᠠᠴᠠ ᠤᠯᠤᠰ ᠲᠥᠷᠦ ᠶᠢᠨ ᠪᠣᠳᠯᠣᠭ᠎ᠠ ᠶᠢ ᠬᠡᠷᠡᠭᠵᠢᠭᠦᠯᠬᠦ ᠃ ᠮᠣᠩᠭᠣᠯ ᠦᠨᠳᠦᠰᠦᠲᠡᠨ ᠦ ᠦᠯᠡᠮᠵᠢ ᠰᠣᠶᠣᠯ ᠢ ᠬᠠᠮᠠᠭᠠᠯᠠᠨ ᠬᠥᠭᠵᠢᠭᠦᠯᠬᠦ ᠶᠢᠨ ᠲᠥᠯᠦᠭᠡ ᠶᠡᠬᠡ ᠠᠵᠢᠯ ᠢ ᠶᠠᠪᠤᠭᠤᠯᠵᠤ ᠪᠠᠶᠢᠨ᠎ᠠ ᠃ ᠡᠨᠡ ᠨᠢ ᠦᠨᠳᠦᠰᠦᠲᠡᠨ ᠦ ᠰᠤᠷᠭᠠᠯ ᠬᠦᠮᠦᠵᠢᠯ ᠢ ᠳᠡᠭᠡᠭᠰᠢᠯᠡᠭᠦᠯᠬᠦ ᠳᠦ ᠴᠢᠬᠤᠯᠠ ᠠᠴᠠ ᠤᠯᠤᠰ ᠲᠥᠷᠦ ᠶᠢᠨ ᠪᠣᠳᠯᠣᠭ᠎ᠠ ᠶᠢ ᠬᠡᠷᠡᠭᠵᠢᠭᠦᠯᠬᠦ ᠃ ᠮᠣᠩᠭᠣᠯ ᠦᠨᠳᠦᠰᠦᠲᠡᠨ ᠦ ᠦᠯᠡᠮᠵᠢ ᠰᠣᠶᠣᠯ ᠢ ᠬᠠᠮᠠᠭᠠᠯᠠᠨ ᠬᠥᠭᠵᠢᠭᠦᠯᠬᠦ ᠶᠢᠨ ᠲᠥᠯᠦᠭᠡ ᠶᠡᠬᠡ ᠠᠵᠢᠯ ᠢ ᠶᠠᠪᠤᠭᠤᠯᠵᠤ ᠪᠠᠶᠢᠨ᠎ᠠ ᠃ ᠡᠨᠡ ᠨᠢ ᠦᠨᠳᠦᠰᠦᠲᠡᠨ ᠦ ᠰᠤᠷᠭᠠᠯ ᠬᠦᠮᠦᠵᠢᠯ ᠢ ᠳᠡᠭᠡᠭᠰᠢᠯᠡᠭᠦᠯᠬᠦ ᠳᠦ ᠴᠢᠬᠤᠯᠠ ᠠᠴᠠ ᠤᠯᠤᠰ ᠲᠥᠷᠦ ᠶᠢᠨ ᠪᠣᠳᠯᠣᠭ᠎ᠠ ᠶᠢ ᠬᠡᠷᠡᠭᠵᠢᠭᠦᠯᠬᠦ ᠃ ᠮᠣᠩᠭᠣᠯ ᠦᠨᠳᠦᠰᠦᠲᠡᠨ ᠦ ᠦᠯᠡᠮᠵᠢ ᠰᠣᠶᠣᠯ ᠢ ᠬᠠᠮᠠᠭᠠᠯᠠᠨ ᠬᠥᠭᠵᠢᠭᠦᠯᠬᠦ ᠶᠢᠨ ᠲᠥᠯᠦᠭᠡ ᠶᠡᠬᠡ ᠠᠵᠢᠯ ᠢ ᠶᠠᠪᠤᠭᠤᠯᠵᠤ ᠪᠠᠶᠢᠨ᠎ᠠ ᠃ ᠡᠨᠡ ᠨᠢ ᠦᠨᠳᠦᠰᠦᠲᠡᠨ ᠦ ᠰᠤᠷᠭᠠᠯ ᠬᠦᠮᠦᠵᠢᠯ ᠢ ᠳᠡᠭᠡᠭᠰᠢᠯᠡᠭᠦᠯᠬᠦ ᠳᠦ ᠴᠢᠬᠤᠯᠠ ᠠᠴᠠ ᠤᠯᠤᠰ ᠲᠥᠷᠦ ᠶᠢᠨ ᠪᠣᠳᠯᠣᠭ᠎ᠠ ᠶᠢ ᠬᠡᠷᠡᠭᠵᠢᠭᠦᠯᠬᠦ ᠃ ᠮᠣᠩᠭᠣᠯ ᠦᠨᠳᠦᠰᠦᠲᠡᠨ ᠦ ᠦᠯᠡᠮᠵᠢ ᠰᠣᠶᠣᠯ ᠢ ᠬᠠᠮᠠᠭᠠᠯᠠᠨ ᠬᠥᠭᠵᠢᠭᠦᠯᠬᠦ ᠶᠢᠨ ᠲᠥᠯᠦᠭᠡ ᠶᠡᠬᠡ ᠠᠵᠢᠯ ᠢ ᠶᠠᠪᠤᠭᠤᠯᠵᠤ ᠪᠠᠶᠢᠨ᠎ᠠ ᠃ ᠡᠨᠡ ᠨᠢ ᠦᠨᠳᠦᠰᠦᠲᠡᠨ ᠦ ᠰᠤᠷᠭᠠᠯ ᠬᠦᠮᠦᠵᠢᠯ ᠢ ᠳᠡᠭᠡᠭᠰᠢᠯᠡᠭᠦᠯᠬᠦ ᠳᠦ ᠴᠢᠬᠤᠯᠠ ᠠᠴᠠ ᠤᠯᠤᠰ ᠲᠥᠷᠦ ᠶᠢᠨ ᠪᠣᠳᠯᠣᠭ᠎ᠠ ᠶᠢ ᠬᠡᠷᠡᠭᠵᠢᠭᠦᠯᠬᠦ ᠃ ᠮᠣᠩᠭᠣᠯ ᠦᠨᠳᠦᠰᠦᠲᠡᠨ ᠦ ᠦᠯᠡᠮᠵᠢ ᠰᠣᠶᠣᠯ ᠢ ᠬᠠᠮᠠᠭᠠᠯᠠᠨ ᠬᠥᠭᠵᠢᠭᠦᠯᠬᠦ ᠶᠢᠨ ᠲᠥᠯᠦᠭᠡ ᠶᠡᠬᠡ ᠠᠵᠢᠯ ᠢ ᠶᠠᠪᠤᠭᠤᠯᠵᠤ ᠪᠠᠶᠢᠨ᠎ᠠ ᠃ ᠡᠨᠡ ᠨᠢ ᠦᠨᠳᠦᠰᠦᠲᠡᠨ ᠦ ᠰᠤᠷᠭᠠᠯ ᠬᠦᠮᠦᠵᠢᠯ ᠢ ᠳᠡᠭᠡᠭᠰᠢᠯᠡᠭᠦᠯᠬᠦ ᠳᠦ ᠴᠢᠬᠤᠯᠠ ᠠᠴᠠ ᠤᠯᠤᠰ ᠲᠥᠷᠦ ᠶᠢᠨ ᠪᠣᠳᠯᠣᠭ᠎ᠠ ᠶᠢ ᠬᠡᠷᠡᠭᠵᠢᠭᠦᠯᠬᠦ ᠃ ᠮᠣᠩᠭᠣᠯ ᠦᠨᠳᠦᠰᠦᠲᠡᠨ ᠦ ᠦᠯᠡᠮᠵᠢ ᠰᠣᠶᠣᠯ ᠢ ᠬᠠᠮᠠᠭᠠᠯᠠᠨ ᠬᠥᠭᠵᠢᠭᠦᠯᠬᠦ ᠶᠢᠨ ᠲᠥᠯᠦᠭᠡ ᠶᠡᠬᠡ ᠠᠵᠢᠯ ᠢ ᠶᠠᠪᠤᠭᠤᠯᠵᠤ ᠪᠠᠶᠢᠨ᠎ᠠ ᠃ ᠡᠨᠡ ᠨᠢ ᠦᠨᠳᠦᠰᠦᠲᠡᠨ ᠦ ᠰᠤᠷᠭᠠᠯ ᠬᠦᠮᠦᠵᠢᠯ ᠢ ᠳᠡᠭᠡᠭᠰᠢᠯᠡᠭᠦᠯᠬᠦ ᠳᠦ ᠴᠢᠬᠤᠯᠠ ᠠᠴᠠ ᠤᠯᠤᠰ ᠲᠥᠷᠦ ᠶᠢᠨ ᠪᠣᠳᠯᠣᠭ᠎ᠠ ᠶᠢ ᠬᠡᠷᠡᠭᠵᠢᠭᠦᠯᠬᠦ ᠃ ᠮᠣᠩᠭᠣᠯ ᠦᠨᠳᠦᠰᠦᠲᠡᠨ ᠦ ᠦᠯᠡᠮᠵᠢ ᠰᠣᠶᠣᠯ ᠢ ᠬᠠᠮᠠᠭᠠᠯᠠᠨ ᠬᠥᠭᠵᠢᠭᠦᠯᠬᠦ ᠶᠢᠨ ᠲᠥᠯᠦᠭᠡ ᠶᠡᠬᠡ ᠠᠵᠢᠯ ᠢ ᠶᠠᠪᠤᠭᠤᠯᠵᠤ ᠪᠠᠶᠢᠨ᠎ᠠ ᠃ ᠡᠨᠡ ᠨᠢ ᠦᠨᠳᠦᠰᠦᠲᠡᠨ ᠦ ᠰᠤᠷᠭᠠᠯ ᠬᠦᠮᠦᠵᠢᠯ ᠢ ᠳᠡᠭᠡᠭᠰᠢᠯᠡᠭᠦᠯᠬᠦ ᠳᠦ ᠴᠢᠬᠤᠯᠠ ᠠᠴᠠ ᠤᠯᠤᠰ ᠲᠥᠷᠦ ᠶᠢᠨ ᠪᠣᠳᠯᠣᠭ᠎ᠠ ᠶᠢ ᠬᠡᠷᠡᠭᠵᠢᠭᠦᠯᠬᠦ ᠃ ᠮᠣᠩᠭᠣᠯ ᠦᠨᠳᠦᠰᠦᠲᠡᠨ ᠦ ᠦᠯᠡᠮᠵᠢ ᠰᠣᠶᠣᠯ ᠢ ᠬᠠᠮᠠᠭᠠᠯᠠᠨ ᠬᠥᠭᠵᠢᠭᠦᠯᠬᠦ ᠶᠢᠨ ᠲᠥᠯᠦᠭᠡ ᠶᠡᠬᠡ ᠠᠵᠢᠯ ᠢ ᠶᠠᠪᠤᠭᠤᠯᠵᠤ ᠪᠠᠶᠢᠨ᠎ᠠ ᠃ ᠡᠨᠡ ᠨᠢ ᠦᠨᠳᠦᠰᠦᠲᠡᠨ ᠦ ᠰᠤᠷᠭᠠᠯ ᠬᠦᠮᠦᠵᠢᠯ ᠢ ᠳᠡᠭᠡᠭᠰᠢᠯᠡᠭᠦᠯᠬᠦ ᠳᠦ ᠴᠢᠬᠤᠯᠠ ᠠᠴᠠ ᠤᠯᠤᠰ ᠲᠥᠷᠦ ᠶᠢᠨ ᠪᠣᠳᠯᠣᠭ᠎ᠠ ᠶᠢ ᠬᠡᠷᠡᠭᠵᠢᠭᠦᠯᠬᠦ ᠃ ᠮᠣᠩᠭᠣᠯ ᠦᠨᠳᠦᠰᠦᠲᠡᠨ ᠦ ᠦᠯᠡᠮᠵᠢ ᠰᠣᠶᠣᠯ ᠢ ᠬᠠᠮᠠᠭᠠᠯᠠᠨ ᠬᠥᠭᠵᠢᠭᠦᠯᠬᠦ ᠶᠢᠨ ᠲᠥᠯᠦᠭᠡ ᠶᠡᠬᠡ ᠠᠵᠢᠯ ᠢ ᠶᠠᠪᠤᠭᠤᠯᠵᠤ ᠪᠠᠶᠢᠨ᠎ᠠ ᠃ ᠡᠨᠡ ᠨᠢ ᠦᠨᠳᠦᠰᠦᠲᠡᠨ ᠦ ᠰᠤᠷᠭᠠᠯ ᠬᠦᠮᠦᠵᠢᠯ ᠢ ᠳᠡᠭᠡᠭᠰᠢᠯᠡᠭᠦᠯᠬᠦ ᠳᠦ ᠴᠢᠬᠤᠯᠠ ᠠᠴᠠ ᠤᠯᠤᠰ ᠲᠥᠷᠦ ᠶᠢᠨ ᠪᠣᠳᠯᠣᠭ᠎ᠠ ᠶᠢ ᠬᠡᠷᠡᠭᠵᠢᠭᠦᠯᠬᠦ ᠃ ᠮᠣᠩᠭᠣᠯ ᠦᠨᠳᠦᠰᠦᠲᠡᠨ ᠦ ᠦᠯᠡᠮᠵᠢ ᠰᠣᠶᠣᠯ ᠢ ᠬᠠᠮᠠᠭᠠᠯᠠᠨ ᠬᠥᠭᠵᠢᠭᠦᠯᠬᠦ ᠶᠢᠨ ᠲᠥᠯᠦᠭᠡ ᠶᠡᠬᠡ ᠠᠵᠢᠯ ᠢ ᠶᠠᠪᠤᠭᠤᠯᠵᠤ ᠪᠠᠶᠢᠨ᠎ᠠ ᠃ ᠡᠨᠡ ᠨᠢ ᠦᠨᠳᠦᠰᠦᠲᠡᠨ ᠦ ᠰᠤᠷᠭᠠᠯ ᠬᠦᠮᠦᠵᠢᠯ ᠢ ᠳᠡᠭᠡᠭᠰᠢᠯᠡᠭᠦᠯᠬᠦ ᠳᠦ ᠴᠢᠬᠤᠯᠠ ᠠᠴᠠ ᠤᠯᠤᠰ ᠲᠥᠷᠦ ᠶᠢᠨ ᠪᠣᠳᠯᠣᠭ᠎ᠠ ᠶᠢ ᠬᠡᠷᠡᠭᠵᠢᠭᠦᠯᠬᠦ ᠃ ᠮᠣᠩᠭᠣᠯ ᠦᠨᠳᠦᠰᠦᠲᠡᠨ ᠦ ᠦᠯᠡᠮᠵᠢ ᠰᠣᠶᠣᠯ ᠢ ᠬᠠᠮᠠᠭᠠᠯᠠᠨ ᠬᠥᠭᠵᠢᠭᠦᠯᠬᠦ ᠶᠢᠨ ᠲᠥᠯᠦᠭᠡ ᠶᠡᠬᠡ ᠠᠵᠢᠯ ᠢ ᠶᠠᠪᠤᠭᠤᠯᠵᠤ ᠪᠠᠶᠢᠨ᠎ᠠ ᠃ ᠡᠨᠡ ᠨᠢ ᠦᠨᠳᠦᠰᠦᠲᠡᠨ ᠦ ᠰᠤᠷᠭᠠᠯ ᠬᠦᠮᠦᠵᠢᠯ ᠢ ᠳᠡᠭᠡᠭᠰᠢᠯᠡᠭᠦᠯᠬᠦ ᠳᠦ ᠴᠢᠬᠤᠯᠠ ᠠᠴᠠ ᠤᠯᠤᠰ ᠲᠥᠷᠦ ᠶᠢᠨ ᠪᠣᠳᠯᠣᠭ᠎ᠠ ᠶᠢ ᠬᠡᠷᠡᠭᠵᠢᠭᠦᠯᠬᠦ ᠃ ᠮᠣᠩᠭᠣᠯ ᠦᠨᠳᠦᠰᠦᠲᠡᠨ ᠦ ᠦᠯᠡᠮᠵᠢ ᠰᠣᠶᠣᠯ ᠢ ᠬᠠᠮᠠᠭᠠᠯᠠᠨ ᠬᠥᠭᠵᠢᠭᠦᠯᠬᠦ ᠶᠢᠨ ᠲᠥᠯᠦᠭᠡ ᠶᠡᠬᠡ ᠠᠵᠢᠯ ᠢ ᠶᠠᠪᠤᠭᠤᠯᠵᠤ ᠪᠠᠶᠢᠨ᠎ᠠ ᠃ ᠡᠨᠡ ᠨᠢ ᠦᠨᠳᠦᠰᠦᠲᠡᠨ ᠦ ᠰᠤᠷᠭᠠᠯ ᠬᠦᠮᠦᠵᠢᠯ ᠢ ᠳᠡᠭᠡᠭᠰᠢᠯᠡᠭᠦᠯᠬᠦ ᠳᠦ ᠴᠢᠬᠤᠯᠠ ᠠᠴᠠ ᠤᠯᠤᠰ ᠲᠥᠷᠦ ᠶᠢᠨ ᠪᠣᠳᠯᠣᠭ᠎ᠠ ᠶᠢ ᠬᠡᠷᠡᠭᠵᠢᠭᠦᠯᠬᠦ ᠃ ᠮᠣᠩᠭᠣᠯ ᠦᠨᠳᠦᠰᠦᠲᠡᠨ ᠦ ᠦᠯᠡᠮᠵᠢ ᠰᠣᠶᠣᠯ ᠢ ᠬᠠᠮᠠᠭᠠᠯᠠᠨ ᠬᠥᠭᠵᠢᠭᠦᠯᠬᠦ ᠶᠢᠨ ᠲᠥᠯᠦᠭᠡ ᠶᠡᠬᠡ ᠠᠵᠢᠯ ᠢ ᠶᠠᠪᠤᠭᠤᠯᠵᠤ ᠪᠠᠶᠢᠨ᠎ᠠ ᠃ ᠡᠨᠡ ᠨᠢ ᠦᠨᠳᠦᠰᠦᠲᠡᠨ ᠦ ᠰᠤᠷᠭᠠᠯ ᠬᠦᠮᠦᠵᠢᠯ ᠢ ᠳᠡᠭᠡᠭᠰᠢᠯᠡᠭᠦᠯᠬᠦ ᠳᠦ ᠴᠢᠬᠤᠯᠠ ᠠᠴᠠ ᠤᠯᠤᠰ ᠲᠥᠷᠦ ᠶᠢᠨ ᠪᠣᠳᠯᠣᠭ᠎ᠠ ᠶᠢ ᠬᠡᠷᠡᠭᠵᠢᠭᠦᠯᠬᠦ ᠃ ᠮᠣᠩᠭᠣᠯ ᠦᠨᠳᠦᠰᠦᠲᠡᠨ ᠦ ᠦᠯᠡᠮᠵᠢ ᠰᠣᠶᠣᠯ ᠢ ᠬᠠᠮᠠᠭᠠᠯᠠᠨ ᠬᠥᠭᠵᠢᠭᠦᠯᠬᠦ ᠶᠢᠨ ᠲᠥᠯᠦᠭᠡ ᠶᠡᠬᠡ ᠠᠵᠢᠯ ᠢ ᠶᠠᠪᠤᠭᠤᠯᠵᠤ ᠪᠠᠶᠢᠨ᠎ᠠ ᠃ ᠡᠨᠡ ᠨᠢ ᠦᠨᠳᠦᠰᠦᠲᠡᠨ ᠦ ᠰᠤᠷᠭᠠᠯ ᠬᠦᠮᠦᠵᠢᠯ ᠢ ᠳᠡᠭᠡᠭᠰᠢᠯᠡᠭᠦᠯᠬᠦ ᠳᠦ ᠴᠢᠬᠤᠯᠠ ᠠᠴᠠ ᠤᠯᠤᠰ ᠲᠥᠷᠦ ᠶᠢᠨ ᠪᠣᠳᠯᠣᠭ᠎ᠠ ᠶᠢ ᠬᠡᠷᠡᠭᠵᠢᠭᠦᠯᠬᠦ ᠃ ᠮᠣᠩᠭᠣᠯ ᠦᠨᠳᠦᠰᠦᠲᠡᠨ ᠦ ᠦᠯᠡᠮᠵᠢ ᠰᠣᠶᠣᠯ ᠢ ᠬᠠᠮᠠᠭᠠᠯᠠᠨ ᠬᠥᠭᠵᠢᠭᠦᠯᠬᠦ ᠶᠢᠨ ᠲᠥᠯᠦᠭᠡ ᠶᠡᠬᠡ ᠠᠵᠢᠯ ᠢ ᠶᠠᠪᠤᠭᠤᠯᠵᠤ ᠪᠠᠶᠢᠨ᠎ᠠ ᠃ ᠡᠨᠡ ᠨᠢ ᠦᠨᠳᠦᠰᠦᠲᠡᠨ ᠦ ᠰᠤᠷᠭᠠᠯ ᠬᠦᠮᠦᠵᠢᠯ ᠢ ᠳᠡᠭᠡᠭᠰᠢᠯᠡᠭᠦᠯᠬᠦ ᠳᠦ ᠴᠢᠬᠤᠯᠠ ᠠᠴᠠ ᠤᠯᠤᠰ ᠲᠥᠷᠦ ᠶᠢᠨ ᠪᠣᠳᠯᠣᠭ᠎ᠠ ᠶᠢ ᠬᠡᠷᠡᠭᠵᠢᠭᠦᠯᠬᠦ ᠃ ᠮᠣᠩᠭᠣᠯ ᠦᠨᠳᠦᠰᠦᠲᠡᠨ ᠦ ᠦᠯᠡᠮᠵᠢ ᠰᠣᠶᠣᠯ ᠢ ᠬᠠᠮᠠᠭᠠᠯᠠᠨ ᠬᠥᠭᠵᠢᠭᠦᠯᠬᠦ ᠶᠢᠨ ᠲᠥᠯᠦᠭᠡ ᠶᠡᠬᠡ ᠠᠵᠢᠯ ᠢ ᠶᠠᠪᠤᠭᠤᠯᠵᠤ ᠪᠠᠶᠢᠨ᠎ᠠ ᠃ ᠡᠨᠡ ᠨᠢ ᠦᠨᠳᠦᠰᠦᠲᠡᠨ ᠦ ᠰᠤᠷᠭᠠᠯ ᠬᠦᠮᠦᠵᠢᠯ ᠢ ᠳᠡᠭᠡᠭᠰᠢᠯᠡᠭᠦᠯᠬᠦ ᠳᠦ ᠴᠢᠬᠤᠯᠠ ᠠᠴᠠ ᠤᠯᠤᠰ ᠲᠥᠷᠦ ᠶᠢᠨ ᠪᠣᠳᠯᠣᠭ᠎ᠠ ᠶᠢ ᠬᠡᠷᠡᠭᠵᠢᠭᠦᠯᠬᠦ ᠃ ᠮᠣᠩᠭᠣᠯ ᠦᠨᠳᠦᠰᠦᠲᠡᠨ ᠦ ᠦᠯᠡᠮᠵᠢ ᠰᠣᠶᠣᠯ ᠢ ᠬᠠᠮᠠᠭᠠᠯᠠᠨ ᠬᠥᠭᠵᠢᠭᠦᠯᠬᠦ ᠶᠢᠨ ᠲᠥᠯᠦᠭᠡ ᠶᠡᠬᠡ ᠠᠵᠢᠯ ᠢ ᠶᠠᠪᠤᠭᠤᠯᠵᠤ ᠪᠠᠶᠢᠨ᠎ᠠ ᠃ ᠡᠨᠡ ᠨᠢ ᠦᠨᠳᠦᠰᠦᠲᠡᠨ ᠦ ᠰᠤᠷᠭᠠᠯ ᠬᠦᠮᠦᠵᠢᠯ ᠢ ᠳᠡᠭᠡᠭᠰᠢᠯᠡᠭᠦᠯᠬᠦ ᠳᠦ ᠴᠢᠬᠤᠯᠠ ᠠᠴᠠ ᠤᠯᠤᠰ ᠲᠥᠷᠦ ᠶᠢᠨ ᠪᠣᠳᠯᠣᠭ᠎ᠠ ᠶᠢ ᠬᠡᠷᠡᠭᠵᠢᠭᠦᠯᠬᠦ ᠃ ᠮᠣᠩᠭᠣᠯ ᠦᠨᠳᠦᠰᠦᠲᠡᠨ ᠦ ᠦᠯᠡᠮᠵᠢ ᠰᠣᠶᠣᠯ ᠢ ᠬᠠᠮᠠᠭᠠᠯᠠᠨ ᠬᠥᠭᠵᠢᠭᠦᠯᠬᠦ ᠶᠢᠨ ᠲᠥᠯᠦᠭᠡ ᠶᠡᠬᠡ ᠠᠵᠢᠯ ᠢ ᠶᠠᠪᠤᠭᠤᠯᠵᠤ ᠪᠠᠶᠢᠨ᠎ᠠ ᠃ ᠡᠨᠡ ᠨᠢ ᠦᠨᠳᠦᠰᠦᠲᠡᠨ ᠦ ᠰᠤᠷᠭᠠᠯ ᠬᠦᠮᠦᠵᠢᠯ ᠢ ᠳᠡᠭᠡᠭᠰᠢᠯᠡᠭᠦᠯᠬᠦ ᠳᠦ ᠴᠢᠬᠤᠯᠠ ᠠᠴᠠ ᠤᠯᠤᠰ ᠲᠥᠷᠦ ᠶᠢᠨ ᠪᠣᠳᠯᠣᠭ᠎ᠠ ᠶᠢ ᠬᠡᠷᠡᠭᠵᠢᠭᠦᠯᠬᠦ ᠃ ᠮᠣᠩᠭᠣᠯ ᠦᠨᠳᠦᠰᠦᠲᠡᠨ ᠦ ᠦᠯᠡᠮᠵᠢ ᠰᠣᠶᠣᠯ ᠢ ᠬᠠᠮᠠᠭᠠᠯᠠᠨ ᠬᠥᠭᠵᠢᠭᠦᠯᠬᠦ ᠶᠢᠨ ᠲᠥᠯᠦᠭᠡ ᠶᠡᠬᠡ ᠠᠵᠢᠯ ᠢ ᠶᠠᠪᠤᠭᠤᠯᠵᠤ ᠪᠠᠶᠢᠨ᠎ᠠ ᠃ ᠡᠨᠡ ᠨᠢ ᠦᠨᠳᠦᠰᠦᠲᠡᠨ ᠦ ᠰᠤᠷᠭᠠᠯ ᠬᠦᠮᠦᠵᠢᠯ ᠢ ᠳᠡᠭᠡᠭᠰᠢᠯᠡᠭᠦᠯᠬᠦ ᠳᠦ ᠴᠢᠬᠤᠯᠠ ᠠᠴᠠ ᠤᠯᠤᠰ ᠲᠥᠷᠦ ᠶᠢᠨ ᠪᠣᠳᠯᠣᠭ᠎ᠠ ᠶᠢ ᠬᠡᠷᠡᠭᠵᠢᠭᠦᠯᠬᠦ ᠃ ᠮᠣᠩᠭᠣᠯ ᠦᠨᠳᠦᠰᠦᠲᠡᠨ ᠦ ᠦᠯᠡᠮᠵᠢ ᠰᠣᠶᠣᠯ ᠢ ᠬᠠᠮᠠᠭᠠᠯᠠᠨ ᠬᠥᠭᠵᠢᠭᠦᠯᠬᠦ ᠶᠢᠨ ᠲᠥᠯᠦᠭᠡ ᠶᠡᠬᠡ ᠠᠵᠢᠯ ᠢ ᠶᠠᠪᠤᠭᠤᠯᠵᠤ ᠪᠠᠶᠢᠨ᠎ᠠ ᠃ ᠡᠨᠡ ᠨᠢ ᠦᠨᠳᠦᠰᠦᠲᠡᠨ ᠦ ᠰᠤᠷᠭᠠᠯ ᠬᠦᠮᠦᠵᠢᠯ ᠢ ᠳᠡᠭᠡᠭᠰᠢᠯᠡᠭᠦᠯᠬᠦ ᠳᠦ ᠴᠢᠬᠤᠯᠠ ᠠᠴᠠ ᠤᠯᠤᠰ ᠲᠥᠷᠦ ᠶᠢᠨ ᠪᠣᠳᠯᠣᠭ᠎ᠠ ᠶᠢ ᠬᠡᠷᠡᠭᠵᠢᠭᠦᠯᠬᠦ ᠃ ᠮᠣᠩᠭᠣᠯ ᠦᠨᠳᠦᠰᠦᠲᠡᠨ ᠦ ᠦᠯᠡᠮᠵᠢ ᠰᠣᠶᠣᠯ ᠢ ᠬᠠᠮᠠᠭᠠᠯᠠᠨ ᠬᠥᠭᠵᠢᠭᠦᠯᠬᠦ ᠶᠢᠨ ᠲᠥᠯᠦᠭᠡ ᠶᠡᠬᠡ ᠠᠵᠢᠯ ᠢ ᠶᠠᠪᠤᠭᠤᠯᠵᠤ ᠪᠠᠶᠢᠨ᠎ᠠ ᠃ ᠡᠨᠡ ᠨᠢ ᠦᠨᠳᠦᠰᠦᠲᠡᠨ ᠦ ᠰᠤᠷᠭᠠᠯ ᠬᠦᠮᠦᠵᠢᠯ ᠢ ᠳᠡᠭᠡᠭᠰᠢᠯᠡᠭᠦᠯᠬᠦ ᠳᠦ ᠴᠢᠬᠤᠯᠠ ᠠᠴᠠ ᠤᠯᠤᠰ ᠲᠥᠷᠦ ᠶᠢᠨ ᠪᠣᠳᠯᠣᠭ᠎ᠠ ᠶᠢ ᠬᠡᠷᠡᠭᠵᠢᠭᠦᠯᠬᠦ ᠃ ᠮᠣᠩᠭᠣᠯ ᠦᠨᠳᠦᠰᠦᠲᠡᠨ ᠦ ᠦᠯᠡᠮᠵᠢ ᠰᠣᠶᠣᠯ ᠢ ᠬᠠᠮᠠᠭᠠᠯᠠᠨ ᠬᠥᠭᠵᠢᠭᠦᠯᠬᠦ ᠶᠢᠨ ᠲᠥᠯᠦᠭᠡ ᠶᠡᠬᠡ ᠠᠵᠢᠯ ᠢ ᠶᠠᠪᠤᠭᠤᠯᠵᠤ ᠪᠠᠶᠢᠨ᠎ᠠ ᠃ ᠡᠨᠡ ᠨᠢ ᠦᠨᠳᠦᠰᠦᠲᠡᠨ ᠦ ᠰᠤᠷᠭᠠᠯ ᠬᠦᠮᠦᠵᠢᠯ ᠢ ᠳᠡᠭᠡᠭᠰᠢᠯᠡᠭᠦᠯᠬᠦ ᠳᠦ ᠴᠢᠬᠤᠯᠠ ᠠᠴᠠ ᠤᠯᠤᠰ ᠲᠥᠷᠦ ᠶᠢᠨ ᠪᠣᠳᠯᠣᠭ᠎ᠠ ᠶᠢ ᠬᠡᠷᠡᠭᠵᠢᠭᠦᠯᠬᠦ ᠃ ᠮᠣᠩᠭᠣᠯ ᠦᠨᠳᠦᠰᠦᠲᠡᠨ ᠦ ᠦᠯᠡᠮᠵᠢ ᠰᠣᠶᠣᠯ ᠢ ᠬᠠᠮᠠᠭᠠᠯᠠᠨ ᠬᠥᠭᠵᠢᠭᠦᠯᠬᠦ ᠶᠢᠨ ᠲᠥᠯᠦᠭᠡ ᠶᠡᠬᠡ ᠠᠵᠢᠯ ᠢ ᠶᠠᠪᠤᠭᠤᠯᠵᠤ ᠪᠠᠶᠢᠨ᠎ᠠ ᠃ ᠡᠨᠡ ᠨᠢ ᠦᠨᠳᠦᠰᠦᠲᠡᠨ ᠦ ᠰᠤᠷᠭᠠᠯ ᠬᠦᠮᠦᠵᠢᠯ ᠢ ᠳᠡᠭᠡᠭᠰᠢᠯᠡᠭᠦᠯᠬᠦ ᠳᠦ ᠴᠢᠬᠤᠯᠠ ᠠᠴᠠ ᠤᠯᠤᠰ ᠲᠥᠷᠦ ᠶᠢᠨ ᠪᠣᠳᠯᠣᠭ᠎ᠠ ᠶᠢ ᠬᠡᠷᠡᠭᠵᠢᠭᠦᠯᠬᠦ ᠃
2013.7 31
